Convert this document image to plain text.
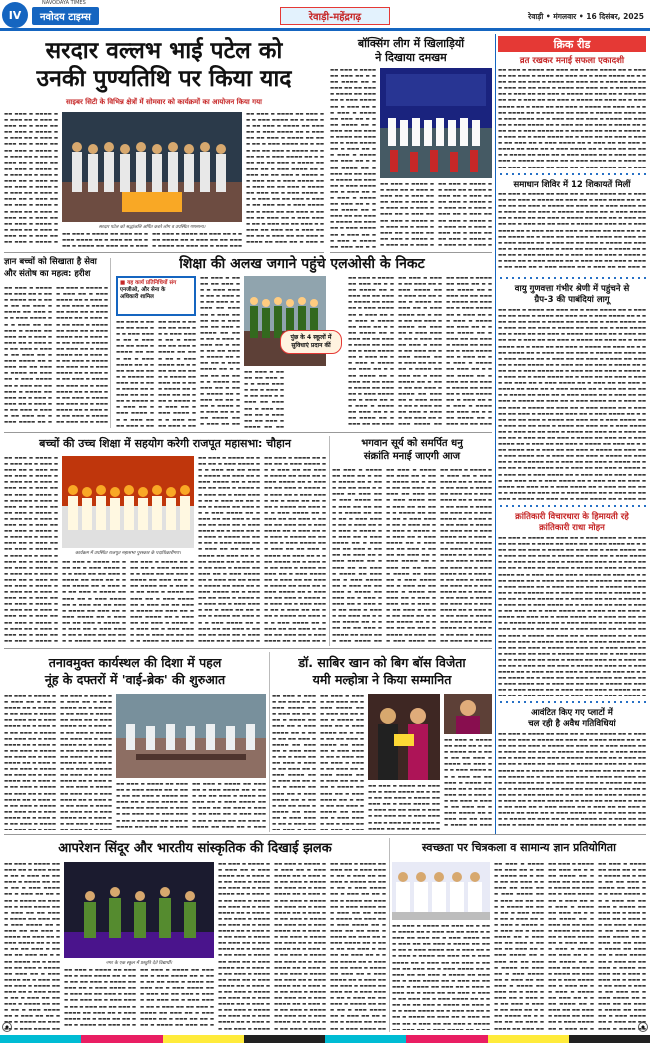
IV
NAVODAYA TIMES
नवोदय टाइम्स	रेवाड़ी-महेंद्रगढ़	रेवाड़ी • मंगलवार • 16 दिसंबर, 2025
सरदार वल्लभ भाई पटेल को
उनकी पुण्यतिथि पर किया याद
साइबर सिटी के विभिन्न क्षेत्रों में सोमवार को कार्यक्रमों का आयोजन किया गया
▬▬ ▬▬▬ ▬ ▬▬▬▬ ▬▬ ▬▬▬ ▬▬ ▬ ▬▬▬ ▬▬▬▬ ▬▬ ▬ ▬▬▬ ▬▬ ▬▬ ▬▬▬ ▬ ▬▬▬▬ ▬▬ ▬▬▬ ▬▬ ▬ ▬▬▬ ▬▬▬▬ ▬▬ ▬ ▬▬▬ ▬▬ ▬▬ ▬▬▬ ▬ ▬▬▬▬ ▬▬ ▬▬▬ ▬▬ ▬ ▬▬▬ ▬▬▬▬ ▬▬ ▬ ▬▬▬ ▬▬ ▬▬ ▬▬▬ ▬ ▬▬▬▬ ▬▬ ▬▬▬ ▬▬ ▬ ▬▬▬ ▬▬▬▬ ▬▬ ▬ ▬▬▬ ▬▬ ▬▬ ▬▬▬ ▬ ▬▬▬▬ ▬▬ ▬▬▬ ▬▬ ▬ ▬▬▬ ▬▬▬▬ ▬▬ ▬ ▬▬▬ ▬▬ ▬▬ ▬▬▬ ▬ ▬▬▬▬ ▬▬ ▬▬▬ ▬▬ ▬ ▬▬▬ ▬▬▬▬ ▬▬ ▬ ▬▬▬ ▬▬ ▬▬ ▬▬▬ ▬ ▬▬▬▬ ▬▬ ▬▬▬ ▬▬ ▬ ▬▬▬ ▬▬▬▬ ▬▬ ▬ ▬▬▬ ▬▬ ▬▬ ▬▬▬ ▬ ▬▬▬▬ ▬▬ ▬▬▬ ▬▬ ▬ ▬▬▬ ▬▬▬▬ ▬▬ ▬ ▬▬▬ ▬▬ ▬▬ ▬▬▬ ▬ ▬▬▬▬ ▬▬ ▬▬▬ ▬▬ ▬ ▬▬▬ ▬▬▬▬ ▬▬ ▬ ▬▬▬ ▬▬ ▬▬ ▬▬▬ ▬ ▬▬▬▬ ▬▬ ▬▬▬ ▬▬ ▬ ▬▬▬ ▬▬▬▬ ▬▬ ▬ ▬▬▬ ▬▬ ▬▬ ▬▬▬ ▬ ▬▬▬▬ ▬▬ ▬▬▬ ▬▬ ▬ ▬▬▬ ▬▬▬▬ ▬▬ ▬ ▬▬▬ ▬▬ ▬▬ ▬▬▬ ▬ ▬▬▬▬ ▬▬ ▬▬▬ ▬▬ ▬ ▬▬▬ ▬▬▬▬ ▬▬ ▬ ▬▬▬ ▬▬ ▬▬ ▬▬▬ ▬ ▬▬▬▬ ▬▬ ▬▬▬ ▬▬ ▬ ▬▬▬ ▬▬▬▬ ▬▬ ▬ ▬▬▬ ▬▬ ▬▬ ▬▬▬ ▬ ▬▬▬▬ ▬▬ ▬▬▬ ▬▬ ▬ ▬▬▬ ▬▬▬▬ ▬▬ ▬ ▬▬▬ ▬▬ ▬▬ ▬▬▬ ▬ ▬▬▬▬ ▬▬ ▬▬▬ ▬▬ ▬ ▬▬▬ ▬▬▬▬ ▬▬ ▬ ▬▬▬ ▬▬ ▬▬ ▬▬▬ ▬ ▬▬▬▬ ▬▬ ▬▬▬ ▬▬ ▬ ▬▬▬ ▬▬▬▬ ▬▬ ▬ ▬▬▬ ▬▬ ▬▬ ▬▬▬ ▬ ▬▬▬▬ ▬▬ ▬▬▬ ▬▬ ▬ ▬▬▬ ▬▬▬▬ ▬▬ ▬ ▬▬▬ ▬▬ ▬▬ ▬▬▬ ▬ ▬▬▬▬ ▬▬ ▬▬▬ ▬▬ ▬ ▬▬▬ ▬▬▬▬ ▬▬ ▬ ▬▬▬ ▬▬ ▬▬ ▬▬▬ ▬ ▬▬▬▬ ▬▬ ▬▬▬ ▬▬ ▬ ▬▬▬ ▬▬▬▬ ▬▬ ▬ ▬▬▬ ▬▬ ▬▬ ▬▬▬ ▬ ▬▬▬▬ ▬▬ ▬▬▬ ▬▬ ▬ ▬▬▬ ▬▬▬▬ ▬▬ ▬ ▬▬▬ ▬▬ ▬▬ ▬▬▬ ▬ ▬▬▬▬ ▬▬ ▬▬▬ ▬▬ ▬ ▬▬▬ ▬▬▬▬ ▬▬ ▬ ▬▬▬ ▬▬ ▬▬ ▬▬▬ ▬ ▬▬▬▬ ▬▬ ▬▬▬ ▬▬ ▬ ▬▬▬ ▬▬▬▬ ▬▬ ▬ ▬▬▬ ▬▬ ▬▬ ▬▬▬ ▬ ▬▬▬▬ ▬▬ ▬▬▬ ▬▬ ▬ ▬▬▬ ▬▬▬▬ ▬▬ ▬ ▬▬▬ ▬▬ ▬▬ ▬▬▬ ▬ ▬▬▬▬ ▬▬ ▬▬▬ ▬▬ ▬ ▬▬▬ ▬▬▬▬ ▬▬ ▬ ▬▬▬ ▬▬ ▬▬ ▬▬▬ ▬ ▬▬▬▬ ▬▬ ▬▬▬ ▬▬ ▬ ▬▬▬ ▬▬▬▬ ▬▬ ▬ ▬▬▬ ▬▬ ▬▬ ▬▬▬ ▬ ▬▬▬▬ ▬▬ ▬▬▬ ▬▬ ▬ ▬▬▬ ▬▬▬▬ ▬▬ ▬ ▬▬▬ ▬▬ ▬▬ ▬▬▬ ▬ ▬▬▬▬ ▬▬ ▬▬▬ ▬▬ ▬ ▬▬▬ ▬▬▬▬ ▬▬ ▬ ▬▬▬ ▬▬ ▬▬ ▬▬▬ ▬ ▬▬▬▬ ▬▬ ▬▬▬ ▬▬ ▬ ▬▬▬ ▬▬▬▬ ▬▬ ▬ ▬▬▬ ▬▬ ▬▬ ▬▬▬ ▬ ▬▬▬▬ ▬▬ ▬▬▬ ▬▬ ▬ ▬▬▬ ▬▬▬▬ ▬▬ ▬ ▬▬▬ ▬▬ ▬▬ ▬▬▬ ▬ ▬▬▬▬ ▬▬ ▬▬▬ ▬▬ ▬ ▬▬▬ ▬▬▬▬ ▬▬ ▬ ▬▬▬ ▬▬ ▬▬ ▬▬▬ ▬ ▬▬▬▬ ▬▬ ▬▬▬ ▬▬ ▬ ▬▬▬ ▬▬▬▬ ▬▬ ▬ ▬▬▬ ▬▬ ▬▬ ▬▬▬ ▬ ▬▬▬▬ ▬▬ ▬▬▬ ▬▬ ▬ ▬▬▬ ▬▬▬▬ ▬▬ ▬ ▬▬▬ ▬▬ ▬▬ ▬▬▬ ▬ ▬▬▬▬ ▬▬ ▬▬▬ ▬▬ ▬ ▬▬▬ ▬▬▬▬ ▬▬ ▬ ▬▬▬ ▬▬ ▬▬ ▬▬▬ ▬ ▬▬▬▬ ▬▬ ▬▬▬ ▬▬ ▬ ▬▬▬ ▬▬▬▬ ▬▬ ▬ ▬▬▬ ▬▬ ▬▬ ▬▬▬ ▬ ▬▬▬▬ ▬▬ ▬▬▬ ▬▬ ▬ ▬▬▬ ▬▬▬▬ ▬▬ ▬ ▬▬▬ ▬▬ ▬▬ ▬▬▬ ▬ ▬▬▬▬ ▬▬ ▬▬▬ ▬▬ ▬ ▬▬▬ ▬▬▬▬ ▬▬ ▬ ▬▬▬ ▬▬ ▬▬ ▬▬▬ ▬ ▬▬▬▬ ▬▬ ▬▬▬ ▬▬ ▬ ▬▬▬ ▬▬▬▬ ▬▬ ▬ ▬▬▬ ▬▬ ▬▬ ▬▬▬ ▬ ▬▬▬▬ ▬▬ ▬▬▬ ▬▬ ▬ ▬▬▬ ▬▬▬▬ ▬▬ ▬ ▬▬▬ ▬▬ ▬▬ ▬▬▬ ▬ ▬▬▬▬ ▬▬ ▬▬▬ ▬▬ ▬ ▬▬▬ ▬▬▬▬ ▬▬ ▬ ▬▬▬ ▬▬ ▬▬ ▬▬▬ ▬ ▬▬▬▬ ▬▬ ▬▬▬ ▬▬ ▬ ▬▬▬ ▬▬▬▬ ▬▬ ▬ ▬▬▬ ▬▬ ▬▬ ▬▬▬ ▬ ▬▬▬▬ ▬▬ ▬▬▬ ▬▬ ▬ ▬▬▬ ▬▬▬▬ ▬▬ ▬ ▬▬▬ ▬▬ ▬▬ ▬▬▬ ▬ ▬▬▬▬ ▬▬ ▬▬▬ ▬▬ ▬ ▬▬▬ ▬▬▬▬ ▬▬ ▬ ▬▬▬ ▬▬ ▬▬ ▬▬▬ ▬ ▬▬▬▬ ▬▬ ▬▬▬ ▬▬ ▬ ▬▬▬ ▬▬▬▬ ▬▬ ▬ ▬▬▬ ▬▬ ▬▬ ▬▬▬ ▬ ▬▬▬▬ ▬▬ ▬▬▬ ▬▬ ▬ ▬▬▬ ▬▬▬▬ ▬▬ ▬ ▬▬▬ ▬▬ ▬▬ ▬▬▬ ▬ ▬▬▬▬ ▬▬ ▬▬▬ ▬▬ ▬ ▬▬▬ ▬▬▬▬ ▬▬ ▬ ▬▬▬ ▬▬ ▬▬ ▬▬▬ ▬ ▬▬▬▬ ▬▬ ▬▬▬ ▬▬ ▬ ▬▬▬ ▬▬▬▬ ▬▬ ▬ ▬▬▬ ▬▬ ▬▬ ▬▬▬ ▬ ▬▬▬▬ ▬▬ ▬▬▬ ▬▬ ▬ ▬▬▬ ▬▬▬▬ ▬▬ ▬ ▬▬▬ ▬▬ ▬▬ ▬▬▬ ▬ ▬▬▬▬ ▬▬ ▬▬▬ ▬▬ ▬ ▬▬▬ ▬▬▬▬ ▬▬ ▬ ▬▬▬ ▬▬ ▬▬ ▬▬▬ ▬ ▬▬▬▬ ▬▬ ▬▬▬ ▬▬ ▬ ▬▬▬ ▬▬▬▬ ▬▬ ▬ ▬▬▬ ▬▬ ▬▬ ▬▬▬ ▬ ▬▬▬▬ ▬▬ ▬▬▬ ▬▬ ▬ ▬▬▬ ▬▬▬▬ ▬▬ ▬ ▬▬▬ ▬▬ ▬▬ ▬▬▬ ▬ ▬▬▬▬ ▬▬ ▬▬▬ ▬▬ ▬ ▬▬▬ ▬▬▬▬ ▬▬ ▬ ▬▬▬ ▬▬ ▬▬ ▬▬▬ ▬ ▬▬▬▬ ▬▬ ▬▬▬ ▬▬ ▬ ▬▬▬ ▬▬▬▬ ▬▬ ▬ ▬▬▬ ▬▬ ▬▬ ▬▬▬ ▬ ▬▬▬▬ ▬▬ ▬▬▬ ▬▬ ▬ ▬▬▬ ▬▬▬▬ ▬▬ ▬ ▬▬▬ ▬▬ ▬▬ ▬▬▬ ▬ ▬▬▬▬ ▬▬ ▬▬▬ ▬▬ ▬ ▬▬▬ ▬▬▬▬ ▬▬ ▬ ▬▬▬ ▬▬ ▬▬ ▬▬▬ ▬ ▬▬▬▬ ▬▬ ▬▬▬ ▬▬ ▬ ▬▬▬ ▬▬▬▬ ▬▬ ▬ ▬▬▬ ▬▬ ▬▬ ▬▬▬ ▬ ▬▬▬▬ ▬▬ ▬▬▬ ▬▬ ▬ ▬▬▬ ▬▬▬▬ ▬▬ ▬ ▬▬▬ ▬▬ ▬▬ ▬▬▬ ▬ ▬▬▬▬ ▬▬ ▬▬▬ ▬▬ ▬ ▬▬▬ ▬▬▬▬ ▬▬ ▬ ▬▬▬ ▬▬ ▬▬ ▬▬▬ ▬ ▬▬▬▬ ▬▬ ▬▬▬ ▬▬ ▬ ▬▬▬ ▬▬▬▬ ▬▬ ▬ ▬▬▬ ▬▬ ▬▬ ▬▬▬ ▬ ▬▬▬▬ ▬▬ ▬▬▬ ▬▬ ▬ ▬▬▬ ▬▬▬▬ ▬▬ ▬ ▬▬▬ ▬▬ ▬▬ ▬▬▬ ▬ ▬▬▬▬ ▬▬ ▬▬▬ ▬▬ ▬ ▬▬▬ ▬▬▬▬ ▬▬ ▬ ▬▬▬ ▬▬
सरदार पटेल को श्रद्धांजलि अर्पित करते लोग व उपस्थित गणमान्य।
▬▬ ▬▬▬ ▬ ▬▬▬▬ ▬▬ ▬▬▬ ▬▬ ▬ ▬▬▬ ▬▬▬▬ ▬▬ ▬ ▬▬▬ ▬▬ ▬▬ ▬▬▬ ▬ ▬▬▬▬ ▬▬ ▬▬▬ ▬▬ ▬ ▬▬▬ ▬▬▬▬ ▬▬ ▬ ▬▬▬ ▬▬ ▬▬ ▬▬▬ ▬ ▬▬▬▬ ▬▬ ▬▬▬ ▬▬ ▬ ▬▬▬ ▬▬▬▬ ▬▬ ▬ ▬▬▬ ▬▬ ▬▬ ▬▬▬ ▬ ▬▬▬▬ ▬▬ ▬▬▬ ▬▬ ▬ ▬▬▬ ▬▬▬▬ ▬▬ ▬ ▬▬▬ ▬▬ ▬▬ ▬▬▬ ▬ ▬▬▬▬ ▬▬ ▬▬▬ ▬▬ ▬ ▬▬▬ ▬▬▬▬ ▬▬ ▬ ▬▬▬ ▬▬ ▬▬ ▬▬▬ ▬ ▬▬▬▬ ▬▬ ▬▬▬ ▬▬ ▬ ▬▬▬ ▬▬▬▬ ▬▬ ▬ ▬▬▬ ▬▬ ▬▬ ▬▬▬ ▬ ▬▬▬▬ ▬▬ ▬▬▬ ▬▬ ▬ ▬▬▬ ▬▬▬▬ ▬▬ ▬ ▬▬▬ ▬▬ ▬▬ ▬▬▬ ▬ ▬▬▬▬ ▬▬ ▬▬▬ ▬▬ ▬ ▬▬▬ ▬▬▬▬ ▬▬ ▬ ▬▬▬ ▬▬ ▬▬ ▬▬▬ ▬ ▬▬▬▬ ▬▬ ▬▬▬ ▬▬ ▬ ▬▬▬ ▬▬▬▬ ▬▬ ▬ ▬▬▬ ▬▬ ▬▬ ▬▬▬ ▬ ▬▬▬▬ ▬▬ ▬▬▬ ▬▬ ▬ ▬▬▬ ▬▬▬▬ ▬▬ ▬ ▬▬▬ ▬▬ ▬▬ ▬▬▬ ▬ ▬▬▬▬ ▬▬ ▬▬▬ ▬▬ ▬ ▬▬▬ ▬▬▬▬ ▬▬ ▬ ▬▬▬ ▬▬ ▬▬ ▬▬▬ ▬ ▬▬▬▬ ▬▬ ▬▬▬ ▬▬ ▬ ▬▬▬ ▬▬▬▬ ▬▬ ▬ ▬▬▬ ▬▬ ▬▬ ▬▬▬ ▬ ▬▬▬▬ ▬▬ ▬▬▬ ▬▬ ▬ ▬▬▬ ▬▬▬▬ ▬▬ ▬ ▬▬▬ ▬▬ ▬▬ ▬▬▬ ▬ ▬▬▬▬ ▬▬ ▬▬▬ ▬▬ ▬ ▬▬▬ ▬▬▬▬ ▬▬ ▬ ▬▬▬ ▬▬ ▬▬ ▬▬▬ ▬ ▬▬▬▬ ▬▬ ▬▬▬ ▬▬ ▬ ▬▬▬ ▬▬▬▬ ▬▬ ▬ ▬▬▬ ▬▬ ▬▬ ▬▬▬ ▬ ▬▬▬▬ ▬▬ ▬▬▬ ▬▬ ▬ ▬▬▬ ▬▬▬▬ ▬▬ ▬ ▬▬▬ ▬▬ ▬▬ ▬▬▬ ▬ ▬▬▬▬ ▬▬ ▬▬▬ ▬▬ ▬ ▬▬▬ ▬▬▬▬ ▬▬ ▬ ▬▬▬ ▬▬ ▬▬ ▬▬▬ ▬ ▬▬▬▬ ▬▬ ▬▬▬ ▬▬ ▬ ▬▬▬ ▬▬▬▬ ▬▬ ▬ ▬▬▬ ▬▬ ▬▬ ▬▬▬ ▬ ▬▬▬▬ ▬▬ ▬▬▬ ▬▬ ▬ ▬▬▬ ▬▬▬▬ ▬▬ ▬ ▬▬▬ ▬▬ ▬▬ ▬▬▬ ▬ ▬▬▬▬ ▬▬ ▬▬▬ ▬▬ ▬ ▬▬▬ ▬▬▬▬ ▬▬ ▬ ▬▬▬ ▬▬ ▬▬ ▬▬▬ ▬ ▬▬▬▬ ▬▬ ▬▬▬ ▬▬ ▬ ▬▬▬ ▬▬▬▬ ▬▬ ▬ ▬▬▬ ▬▬ ▬▬ ▬▬▬ ▬ ▬▬▬▬ ▬▬ ▬▬▬ ▬▬ ▬ ▬▬▬ ▬▬▬▬ ▬▬ ▬ ▬▬▬ ▬▬ ▬▬ ▬▬▬ ▬ ▬▬▬▬ ▬▬ ▬▬▬ ▬▬ ▬ ▬▬▬ ▬▬▬▬ ▬▬ ▬ ▬▬▬ ▬▬ ▬▬ ▬▬▬ ▬ ▬▬▬▬ ▬▬ ▬▬▬ ▬▬ ▬ ▬▬▬ ▬▬▬▬ ▬▬ ▬ ▬▬▬ ▬▬ ▬▬ ▬▬▬ ▬ ▬▬▬▬ ▬▬ ▬▬▬ ▬▬ ▬ ▬▬▬ ▬▬▬▬ ▬▬ ▬ ▬▬▬ ▬▬ ▬▬ ▬▬▬ ▬ ▬▬▬▬ ▬▬ ▬▬▬ ▬▬ ▬ ▬▬▬ ▬▬▬▬ ▬▬ ▬ ▬▬▬ ▬▬ ▬▬ ▬▬▬ ▬ ▬▬▬▬ ▬▬ ▬▬▬ ▬▬ ▬ ▬▬▬ ▬▬▬▬ ▬▬ ▬ ▬▬▬ ▬▬ ▬▬ ▬▬▬ ▬ ▬▬▬▬ ▬▬ ▬▬▬ ▬▬ ▬ ▬▬▬ ▬▬▬▬ ▬▬ ▬ ▬▬▬ ▬▬ ▬▬ ▬▬▬ ▬ ▬▬▬▬ ▬▬ ▬▬▬ ▬▬ ▬ ▬▬▬ ▬▬▬▬ ▬▬ ▬ ▬▬▬ ▬▬ ▬▬ ▬▬▬ ▬ ▬▬▬▬ ▬▬ ▬▬▬ ▬▬ ▬ ▬▬▬ ▬▬▬▬ ▬▬ ▬ ▬▬▬ ▬▬ ▬▬ ▬▬▬ ▬ ▬▬▬▬ ▬▬ ▬▬▬ ▬▬ ▬ ▬▬▬ ▬▬▬▬ ▬▬ ▬ ▬▬▬ ▬▬ ▬▬ ▬▬▬ ▬ ▬▬▬▬ ▬▬ ▬▬▬ ▬▬ ▬ ▬▬▬ ▬▬▬▬ ▬▬ ▬ ▬▬▬ ▬▬ ▬▬ ▬▬▬ ▬ ▬▬▬▬ ▬▬ ▬▬▬ ▬▬ ▬ ▬▬▬ ▬▬▬▬ ▬▬ ▬ ▬▬▬ ▬▬ ▬▬ ▬▬▬ ▬ ▬▬▬▬ ▬▬ ▬▬▬ ▬▬ ▬ ▬▬▬ ▬▬▬▬ ▬▬ ▬ ▬▬▬ ▬▬ ▬▬ ▬▬▬ ▬ ▬▬▬▬ ▬▬ ▬▬▬ ▬▬ ▬ ▬▬▬ ▬▬▬▬ ▬▬ ▬ ▬▬▬ ▬▬ ▬▬ ▬▬▬ ▬ ▬▬▬▬ ▬▬ ▬▬▬ ▬▬ ▬ ▬▬▬ ▬▬▬▬ ▬▬ ▬ ▬▬▬ ▬▬ ▬▬ ▬▬▬ ▬ ▬▬▬▬ ▬▬ ▬▬▬ ▬▬ ▬ ▬▬▬ ▬▬▬▬ ▬▬ ▬ ▬▬▬ ▬▬ ▬▬ ▬▬▬ ▬ ▬▬▬▬ ▬▬ ▬▬▬ ▬▬ ▬ ▬▬▬ ▬▬▬▬ ▬▬ ▬ ▬▬▬ ▬▬ ▬▬ ▬▬▬ ▬ ▬▬▬▬ ▬▬ ▬▬▬ ▬▬ ▬ ▬▬▬ ▬▬▬▬ ▬▬ ▬ ▬▬▬ ▬▬ ▬▬ ▬▬▬ ▬ ▬▬▬▬ ▬▬ ▬▬▬ ▬▬ ▬ ▬▬▬ ▬▬▬▬ ▬▬ ▬ ▬▬▬ ▬▬ ▬▬ ▬▬▬ ▬ ▬▬▬▬ ▬▬ ▬▬▬ ▬▬ ▬ ▬▬▬ ▬▬▬▬ ▬▬ ▬ ▬▬▬ ▬▬ ▬▬ ▬▬▬ ▬ ▬▬▬▬ ▬▬ ▬▬▬ ▬▬ ▬ ▬▬▬ ▬▬▬▬ ▬▬ ▬ ▬▬▬ ▬▬ ▬▬ ▬▬▬ ▬ ▬▬▬▬ ▬▬ ▬▬▬ ▬▬ ▬ ▬▬▬ ▬▬▬▬ ▬▬ ▬ ▬▬▬ ▬▬ ▬▬ ▬▬▬ ▬ ▬▬▬▬ ▬▬ ▬▬▬ ▬▬ ▬ ▬▬▬ ▬▬▬▬ ▬▬ ▬ ▬▬▬ ▬▬ ▬▬ ▬▬▬ ▬ ▬▬▬▬ ▬▬ ▬▬▬ ▬▬ ▬ ▬▬▬ ▬▬▬▬ ▬▬ ▬ ▬▬▬ ▬▬ ▬▬ ▬▬▬ ▬ ▬▬▬▬ ▬▬ ▬▬▬ ▬▬ ▬ ▬▬▬ ▬▬▬▬ ▬▬ ▬ ▬▬▬ ▬▬ ▬▬ ▬▬▬ ▬ ▬▬▬▬ ▬▬ ▬▬▬ ▬▬ ▬ ▬▬▬ ▬▬▬▬ ▬▬ ▬ ▬▬▬ ▬▬ ▬▬ ▬▬▬ ▬ ▬▬▬▬ ▬▬ ▬▬▬ ▬▬ ▬ ▬▬▬ ▬▬▬▬ ▬▬ ▬ ▬▬▬ ▬▬ ▬▬ ▬▬▬ ▬ ▬▬▬▬ ▬▬ ▬▬▬ ▬▬ ▬ ▬▬▬ ▬▬▬▬ ▬▬ ▬ ▬▬▬ ▬▬ ▬▬ ▬▬▬ ▬ ▬▬▬▬ ▬▬ ▬▬▬ ▬▬ ▬ ▬▬▬ ▬▬▬▬ ▬▬ ▬ ▬▬▬ ▬▬ ▬▬ ▬▬▬ ▬ ▬▬▬▬ ▬▬ ▬▬▬ ▬▬ ▬ ▬▬▬ ▬▬▬▬ ▬▬ ▬ ▬▬▬ ▬▬ ▬▬ ▬▬▬ ▬ ▬▬▬▬ ▬▬ ▬▬▬ ▬▬ ▬ ▬▬▬ ▬▬▬▬ ▬▬ ▬ ▬▬▬ ▬▬ ▬▬ ▬▬▬ ▬ ▬▬▬▬ ▬▬ ▬▬▬ ▬▬ ▬ ▬▬▬ ▬▬▬▬ ▬▬ ▬ ▬▬▬ ▬▬ ▬▬ ▬▬▬ ▬ ▬▬▬▬ ▬▬ ▬▬▬ ▬▬ ▬ ▬▬▬ ▬▬▬▬ ▬▬ ▬ ▬▬▬ ▬▬ ▬▬ ▬▬▬ ▬ ▬▬▬▬ ▬▬ ▬▬▬ ▬▬ ▬ ▬▬▬ ▬▬▬▬ ▬▬ ▬ ▬▬▬ ▬▬ ▬▬ ▬▬▬ ▬ ▬▬▬▬ ▬▬ ▬▬▬ ▬▬ ▬ ▬▬▬ ▬▬▬▬ ▬▬ ▬ ▬▬▬ ▬▬ ▬▬ ▬▬▬ ▬ ▬▬▬▬ ▬▬ ▬▬▬ ▬▬ ▬ ▬▬▬ ▬▬▬▬ ▬▬ ▬ ▬▬▬ ▬▬ ▬▬ ▬▬▬ ▬ ▬▬▬▬ ▬▬ ▬▬▬ ▬▬ ▬ ▬▬▬ ▬▬▬▬ ▬▬ ▬ ▬▬▬ ▬▬ ▬▬ ▬▬▬ ▬ ▬▬▬▬ ▬▬ ▬▬▬ ▬▬ ▬ ▬▬▬ ▬▬▬▬ ▬▬ ▬ ▬▬▬ ▬▬ ▬▬ ▬▬▬ ▬ ▬▬▬▬ ▬▬ ▬▬▬ ▬▬ ▬ ▬▬▬ ▬▬▬▬ ▬▬ ▬ ▬▬▬ ▬▬
▬▬ ▬▬▬ ▬ ▬▬▬▬ ▬▬ ▬▬▬ ▬▬ ▬ ▬▬▬ ▬▬▬▬ ▬▬ ▬ ▬▬▬ ▬▬ ▬▬ ▬▬▬ ▬ ▬▬▬▬ ▬▬ ▬▬▬ ▬▬ ▬ ▬▬▬ ▬▬▬▬ ▬▬ ▬ ▬▬▬ ▬▬ ▬▬ ▬▬▬ ▬ ▬▬▬▬ ▬▬ ▬▬▬ ▬▬ ▬ ▬▬▬ ▬▬▬▬ ▬▬ ▬ ▬▬▬ ▬▬ ▬▬ ▬▬▬ ▬ ▬▬▬▬ ▬▬ ▬▬▬ ▬▬ ▬ ▬▬▬ ▬▬▬▬ ▬▬ ▬ ▬▬▬ ▬▬ ▬▬ ▬▬▬ ▬ ▬▬▬▬ ▬▬ ▬▬▬ ▬▬ ▬ ▬▬▬ ▬▬▬▬ ▬▬ ▬ ▬▬▬ ▬▬ ▬▬ ▬▬▬ ▬ ▬▬▬▬ ▬▬ ▬▬▬ ▬▬ ▬ ▬▬▬ ▬▬▬▬ ▬▬ ▬ ▬▬▬ ▬▬ ▬▬ ▬▬▬ ▬ ▬▬▬▬ ▬▬ ▬▬▬ ▬▬ ▬ ▬▬▬ ▬▬▬▬ ▬▬ ▬ ▬▬▬ ▬▬ ▬▬ ▬▬▬ ▬ ▬▬▬▬ ▬▬ ▬▬▬ ▬▬ ▬ ▬▬▬ ▬▬▬▬ ▬▬ ▬ ▬▬▬ ▬▬ ▬▬ ▬▬▬ ▬ ▬▬▬▬ ▬▬ ▬▬▬ ▬▬ ▬ ▬▬▬ ▬▬▬▬ ▬▬ ▬ ▬▬▬ ▬▬ ▬▬ ▬▬▬ ▬ ▬▬▬▬ ▬▬ ▬▬▬ ▬▬ ▬ ▬▬▬ ▬▬▬▬ ▬▬ ▬ ▬▬▬ ▬▬ ▬▬ ▬▬▬ ▬ ▬▬▬▬ ▬▬ ▬▬▬ ▬▬ ▬ ▬▬▬ ▬▬▬▬ ▬▬ ▬ ▬▬▬ ▬▬ ▬▬ ▬▬▬ ▬ ▬▬▬▬ ▬▬ ▬▬▬ ▬▬ ▬ ▬▬▬ ▬▬▬▬ ▬▬ ▬ ▬▬▬ ▬▬ ▬▬ ▬▬▬ ▬ ▬▬▬▬ ▬▬ ▬▬▬ ▬▬ ▬ ▬▬▬ ▬▬▬▬ ▬▬ ▬ ▬▬▬ ▬▬ ▬▬ ▬▬▬ ▬ ▬▬▬▬ ▬▬ ▬▬▬ ▬▬ ▬ ▬▬▬ ▬▬▬▬ ▬▬ ▬ ▬▬▬ ▬▬ ▬▬ ▬▬▬ ▬ ▬▬▬▬ ▬▬ ▬▬▬ ▬▬ ▬ ▬▬▬ ▬▬▬▬ ▬▬ ▬ ▬▬▬ ▬▬ ▬▬ ▬▬▬ ▬ ▬▬▬▬ ▬▬ ▬▬▬ ▬▬ ▬ ▬▬▬ ▬▬▬▬ ▬▬ ▬ ▬▬▬ ▬▬ ▬▬ ▬▬▬ ▬ ▬▬▬▬ ▬▬ ▬▬▬ ▬▬ ▬ ▬▬▬ ▬▬▬▬ ▬▬ ▬ ▬▬▬ ▬▬ ▬▬ ▬▬▬ ▬ ▬▬▬▬ ▬▬ ▬▬▬ ▬▬ ▬ ▬▬▬ ▬▬▬▬ ▬▬ ▬ ▬▬▬ ▬▬ ▬▬ ▬▬▬ ▬ ▬▬▬▬ ▬▬ ▬▬▬ ▬▬ ▬ ▬▬▬ ▬▬▬▬ ▬▬ ▬ ▬▬▬ ▬▬ ▬▬ ▬▬▬ ▬ ▬▬▬▬ ▬▬ ▬▬▬ ▬▬ ▬ ▬▬▬ ▬▬▬▬ ▬▬ ▬ ▬▬▬ ▬▬ ▬▬ ▬▬▬ ▬ ▬▬▬▬ ▬▬ ▬▬▬ ▬▬ ▬ ▬▬▬ ▬▬▬▬ ▬▬ ▬ ▬▬▬ ▬▬ ▬▬ ▬▬▬ ▬ ▬▬▬▬ ▬▬ ▬▬▬ ▬▬ ▬ ▬▬▬ ▬▬▬▬ ▬▬ ▬ ▬▬▬ ▬▬ ▬▬ ▬▬▬ ▬ ▬▬▬▬ ▬▬ ▬▬▬ ▬▬ ▬ ▬▬▬ ▬▬▬▬ ▬▬ ▬ ▬▬▬ ▬▬ ▬▬ ▬▬▬ ▬ ▬▬▬▬ ▬▬ ▬▬▬ ▬▬ ▬ ▬▬▬ ▬▬▬▬ ▬▬ ▬ ▬▬▬ ▬▬ ▬▬ ▬▬▬ ▬ ▬▬▬▬ ▬▬ ▬▬▬ ▬▬ ▬ ▬▬▬ ▬▬▬▬ ▬▬ ▬ ▬▬▬ ▬▬ ▬▬ ▬▬▬ ▬ ▬▬▬▬ ▬▬ ▬▬▬ ▬▬ ▬ ▬▬▬ ▬▬▬▬ ▬▬ ▬ ▬▬▬ ▬▬ ▬▬ ▬▬▬ ▬ ▬▬▬▬ ▬▬ ▬▬▬ ▬▬ ▬ ▬▬▬ ▬▬▬▬ ▬▬ ▬ ▬▬▬ ▬▬ ▬▬ ▬▬▬ ▬ ▬▬▬▬ ▬▬ ▬▬▬ ▬▬ ▬ ▬▬▬ ▬▬▬▬ ▬▬ ▬ ▬▬▬ ▬▬ ▬▬ ▬▬▬ ▬ ▬▬▬▬ ▬▬ ▬▬▬ ▬▬ ▬ ▬▬▬ ▬▬▬▬ ▬▬ ▬ ▬▬▬ ▬▬ ▬▬ ▬▬▬ ▬ ▬▬▬▬ ▬▬ ▬▬▬ ▬▬ ▬ ▬▬▬ ▬▬▬▬ ▬▬ ▬ ▬▬▬ ▬▬ ▬▬ ▬▬▬ ▬ ▬▬▬▬ ▬▬ ▬▬▬ ▬▬ ▬ ▬▬▬ ▬▬▬▬ ▬▬ ▬ ▬▬▬ ▬▬ ▬▬ ▬▬▬ ▬ ▬▬▬▬ ▬▬ ▬▬▬ ▬▬ ▬ ▬▬▬ ▬▬▬▬ ▬▬ ▬ ▬▬▬ ▬▬ ▬▬ ▬▬▬ ▬ ▬▬▬▬ ▬▬ ▬▬▬ ▬▬ ▬ ▬▬▬ ▬▬▬▬ ▬▬ ▬ ▬▬▬ ▬▬ ▬▬ ▬▬▬ ▬ ▬▬▬▬ ▬▬ ▬▬▬ ▬▬ ▬ ▬▬▬ ▬▬▬▬ ▬▬ ▬ ▬▬▬ ▬▬ ▬▬ ▬▬▬ ▬ ▬▬▬▬ ▬▬ ▬▬▬ ▬▬ ▬ ▬▬▬ ▬▬▬▬ ▬▬ ▬ ▬▬▬ ▬▬ ▬▬ ▬▬▬ ▬ ▬▬▬▬ ▬▬ ▬▬▬ ▬▬ ▬ ▬▬▬ ▬▬▬▬ ▬▬ ▬ ▬▬▬ ▬▬ ▬▬ ▬▬▬ ▬ ▬▬▬▬ ▬▬ ▬▬▬ ▬▬ ▬ ▬▬▬ ▬▬▬▬ ▬▬ ▬ ▬▬▬ ▬▬ ▬▬ ▬▬▬ ▬ ▬▬▬▬ ▬▬ ▬▬▬ ▬▬ ▬ ▬▬▬ ▬▬▬▬ ▬▬ ▬ ▬▬▬ ▬▬ ▬▬ ▬▬▬ ▬ ▬▬▬▬ ▬▬ ▬▬▬ ▬▬ ▬ ▬▬▬ ▬▬▬▬ ▬▬ ▬ ▬▬▬ ▬▬ ▬▬ ▬▬▬ ▬ ▬▬▬▬ ▬▬ ▬▬▬ ▬▬ ▬ ▬▬▬ ▬▬▬▬ ▬▬ ▬ ▬▬▬ ▬▬ ▬▬ ▬▬▬ ▬ ▬▬▬▬ ▬▬ ▬▬▬ ▬▬ ▬ ▬▬▬ ▬▬▬▬ ▬▬ ▬ ▬▬▬ ▬▬ ▬▬ ▬▬▬ ▬ ▬▬▬▬ ▬▬ ▬▬▬ ▬▬ ▬ ▬▬▬ ▬▬▬▬ ▬▬ ▬ ▬▬▬ ▬▬ ▬▬ ▬▬▬ ▬ ▬▬▬▬ ▬▬ ▬▬▬ ▬▬ ▬ ▬▬▬ ▬▬▬▬ ▬▬ ▬ ▬▬▬ ▬▬ ▬▬ ▬▬▬ ▬ ▬▬▬▬ ▬▬ ▬▬▬ ▬▬ ▬ ▬▬▬ ▬▬▬▬ ▬▬ ▬ ▬▬▬ ▬▬ ▬▬ ▬▬▬ ▬ ▬▬▬▬ ▬▬ ▬▬▬ ▬▬ ▬ ▬▬▬ ▬▬▬▬ ▬▬ ▬ ▬▬▬ ▬▬ ▬▬ ▬▬▬ ▬ ▬▬▬▬ ▬▬ ▬▬▬ ▬▬ ▬ ▬▬▬ ▬▬▬▬ ▬▬ ▬ ▬▬▬ ▬▬ ▬▬ ▬▬▬ ▬ ▬▬▬▬ ▬▬ ▬▬▬ ▬▬ ▬ ▬▬▬ ▬▬▬▬ ▬▬ ▬ ▬▬▬ ▬▬ ▬▬ ▬▬▬ ▬ ▬▬▬▬ ▬▬ ▬▬▬ ▬▬ ▬ ▬▬▬ ▬▬▬▬ ▬▬ ▬ ▬▬▬ ▬▬ ▬▬ ▬▬▬ ▬ ▬▬▬▬ ▬▬ ▬▬▬ ▬▬ ▬ ▬▬▬ ▬▬▬▬ ▬▬ ▬ ▬▬▬ ▬▬ ▬▬ ▬▬▬ ▬ ▬▬▬▬ ▬▬ ▬▬▬ ▬▬ ▬ ▬▬▬ ▬▬▬▬ ▬▬ ▬ ▬▬▬ ▬▬ ▬▬ ▬▬▬ ▬ ▬▬▬▬ ▬▬ ▬▬▬ ▬▬ ▬ ▬▬▬ ▬▬▬▬ ▬▬ ▬ ▬▬▬ ▬▬ ▬▬ ▬▬▬ ▬ ▬▬▬▬ ▬▬ ▬▬▬ ▬▬ ▬ ▬▬▬ ▬▬▬▬ ▬▬ ▬ ▬▬▬ ▬▬ ▬▬ ▬▬▬ ▬ ▬▬▬▬ ▬▬ ▬▬▬ ▬▬ ▬ ▬▬▬ ▬▬▬▬ ▬▬ ▬ ▬▬▬ ▬▬ ▬▬ ▬▬▬ ▬ ▬▬▬▬ ▬▬ ▬▬▬ ▬▬ ▬ ▬▬▬ ▬▬▬▬ ▬▬ ▬ ▬▬▬ ▬▬ ▬▬ ▬▬▬ ▬ ▬▬▬▬ ▬▬ ▬▬▬ ▬▬ ▬ ▬▬▬ ▬▬▬▬ ▬▬ ▬ ▬▬▬ ▬▬ ▬▬ ▬▬▬ ▬ ▬▬▬▬ ▬▬ ▬▬▬ ▬▬ ▬ ▬▬▬ ▬▬▬▬ ▬▬ ▬ ▬▬▬ ▬▬ ▬▬ ▬▬▬ ▬ ▬▬▬▬ ▬▬ ▬▬▬ ▬▬ ▬ ▬▬▬ ▬▬▬▬ ▬▬ ▬ ▬▬▬ ▬▬ ▬▬ ▬▬▬ ▬ ▬▬▬▬ ▬▬ ▬▬▬ ▬▬ ▬ ▬▬▬ ▬▬▬▬ ▬▬ ▬ ▬▬▬ ▬▬ ▬▬ ▬▬▬ ▬ ▬▬▬▬ ▬▬ ▬▬▬ ▬▬ ▬ ▬▬▬ ▬▬▬▬ ▬▬ ▬ ▬▬▬ ▬▬ ▬▬ ▬▬▬ ▬ ▬▬▬▬ ▬▬ ▬▬▬ ▬▬ ▬ ▬▬▬ ▬▬▬▬ ▬▬ ▬ ▬▬▬ ▬▬
▬▬ ▬▬▬ ▬ ▬▬▬▬ ▬▬ ▬▬▬ ▬▬ ▬ ▬▬▬ ▬▬▬▬ ▬▬ ▬ ▬▬▬ ▬▬ ▬▬ ▬▬▬ ▬ ▬▬▬▬ ▬▬ ▬▬▬ ▬▬ ▬ ▬▬▬ ▬▬▬▬ ▬▬ ▬ ▬▬▬ ▬▬ ▬▬ ▬▬▬ ▬ ▬▬▬▬ ▬▬ ▬▬▬ ▬▬ ▬ ▬▬▬ ▬▬▬▬ ▬▬ ▬ ▬▬▬ ▬▬ ▬▬ ▬▬▬ ▬ ▬▬▬▬ ▬▬ ▬▬▬ ▬▬ ▬ ▬▬▬ ▬▬▬▬ ▬▬ ▬ ▬▬▬ ▬▬ ▬▬ ▬▬▬ ▬ ▬▬▬▬ ▬▬ ▬▬▬ ▬▬ ▬ ▬▬▬ ▬▬▬▬ ▬▬ ▬ ▬▬▬ ▬▬ ▬▬ ▬▬▬ ▬ ▬▬▬▬ ▬▬ ▬▬▬ ▬▬ ▬ ▬▬▬ ▬▬▬▬ ▬▬ ▬ ▬▬▬ ▬▬ ▬▬ ▬▬▬ ▬ ▬▬▬▬ ▬▬ ▬▬▬ ▬▬ ▬ ▬▬▬ ▬▬▬▬ ▬▬ ▬ ▬▬▬ ▬▬ ▬▬ ▬▬▬ ▬ ▬▬▬▬ ▬▬ ▬▬▬ ▬▬ ▬ ▬▬▬ ▬▬▬▬ ▬▬ ▬ ▬▬▬ ▬▬ ▬▬ ▬▬▬ ▬ ▬▬▬▬ ▬▬ ▬▬▬ ▬▬ ▬ ▬▬▬ ▬▬▬▬ ▬▬ ▬ ▬▬▬ ▬▬ ▬▬ ▬▬▬ ▬ ▬▬▬▬ ▬▬ ▬▬▬ ▬▬ ▬ ▬▬▬ ▬▬▬▬ ▬▬ ▬ ▬▬▬ ▬▬ ▬▬ ▬▬▬ ▬ ▬▬▬▬ ▬▬ ▬▬▬ ▬▬ ▬ ▬▬▬ ▬▬▬▬ ▬▬ ▬ ▬▬▬ ▬▬ ▬▬ ▬▬▬ ▬ ▬▬▬▬ ▬▬ ▬▬▬ ▬▬ ▬ ▬▬▬ ▬▬▬▬ ▬▬ ▬ ▬▬▬ ▬▬ ▬▬ ▬▬▬ ▬ ▬▬▬▬ ▬▬ ▬▬▬ ▬▬ ▬ ▬▬▬ ▬▬▬▬ ▬▬ ▬ ▬▬▬ ▬▬ ▬▬ ▬▬▬ ▬ ▬▬▬▬ ▬▬ ▬▬▬ ▬▬ ▬ ▬▬▬ ▬▬▬▬ ▬▬ ▬ ▬▬▬ ▬▬ ▬▬ ▬▬▬ ▬ ▬▬▬▬ ▬▬ ▬▬▬ ▬▬ ▬ ▬▬▬ ▬▬▬▬ ▬▬ ▬ ▬▬▬ ▬▬ ▬▬ ▬▬▬ ▬ ▬▬▬▬ ▬▬ ▬▬▬ ▬▬ ▬ ▬▬▬ ▬▬▬▬ ▬▬ ▬ ▬▬▬ ▬▬ ▬▬ ▬▬▬ ▬ ▬▬▬▬ ▬▬ ▬▬▬ ▬▬ ▬ ▬▬▬ ▬▬▬▬ ▬▬ ▬ ▬▬▬ ▬▬ ▬▬ ▬▬▬ ▬ ▬▬▬▬ ▬▬ ▬▬▬ ▬▬ ▬ ▬▬▬ ▬▬▬▬ ▬▬ ▬ ▬▬▬ ▬▬ ▬▬ ▬▬▬ ▬ ▬▬▬▬ ▬▬ ▬▬▬ ▬▬ ▬ ▬▬▬ ▬▬▬▬ ▬▬ ▬ ▬▬▬ ▬▬ ▬▬ ▬▬▬ ▬ ▬▬▬▬ ▬▬ ▬▬▬ ▬▬ ▬ ▬▬▬ ▬▬▬▬ ▬▬ ▬ ▬▬▬ ▬▬ ▬▬ ▬▬▬ ▬ ▬▬▬▬ ▬▬ ▬▬▬ ▬▬ ▬ ▬▬▬ ▬▬▬▬ ▬▬ ▬ ▬▬▬ ▬▬ ▬▬ ▬▬▬ ▬ ▬▬▬▬ ▬▬ ▬▬▬ ▬▬ ▬ ▬▬▬ ▬▬▬▬ ▬▬ ▬ ▬▬▬ ▬▬ ▬▬ ▬▬▬ ▬ ▬▬▬▬ ▬▬ ▬▬▬ ▬▬ ▬ ▬▬▬ ▬▬▬▬ ▬▬ ▬ ▬▬▬ ▬▬ ▬▬ ▬▬▬ ▬ ▬▬▬▬ ▬▬ ▬▬▬ ▬▬ ▬ ▬▬▬ ▬▬▬▬ ▬▬ ▬ ▬▬▬ ▬▬ ▬▬ ▬▬▬ ▬ ▬▬▬▬ ▬▬ ▬▬▬ ▬▬ ▬ ▬▬▬ ▬▬▬▬ ▬▬ ▬ ▬▬▬ ▬▬ ▬▬ ▬▬▬ ▬ ▬▬▬▬ ▬▬ ▬▬▬ ▬▬ ▬ ▬▬▬ ▬▬▬▬ ▬▬ ▬ ▬▬▬ ▬▬ ▬▬ ▬▬▬ ▬ ▬▬▬▬ ▬▬ ▬▬▬ ▬▬ ▬ ▬▬▬ ▬▬▬▬ ▬▬ ▬ ▬▬▬ ▬▬ ▬▬ ▬▬▬ ▬ ▬▬▬▬ ▬▬ ▬▬▬ ▬▬ ▬ ▬▬▬ ▬▬▬▬ ▬▬ ▬ ▬▬▬ ▬▬ ▬▬ ▬▬▬ ▬ ▬▬▬▬ ▬▬ ▬▬▬ ▬▬ ▬ ▬▬▬ ▬▬▬▬ ▬▬ ▬ ▬▬▬ ▬▬ ▬▬ ▬▬▬ ▬ ▬▬▬▬ ▬▬ ▬▬▬ ▬▬ ▬ ▬▬▬ ▬▬▬▬ ▬▬ ▬ ▬▬▬ ▬▬ ▬▬ ▬▬▬ ▬ ▬▬▬▬ ▬▬ ▬▬▬ ▬▬ ▬ ▬▬▬ ▬▬▬▬ ▬▬ ▬ ▬▬▬ ▬▬ ▬▬ ▬▬▬ ▬ ▬▬▬▬ ▬▬ ▬▬▬ ▬▬ ▬ ▬▬▬ ▬▬▬▬ ▬▬ ▬ ▬▬▬ ▬▬ ▬▬ ▬▬▬ ▬ ▬▬▬▬ ▬▬ ▬▬▬ ▬▬ ▬ ▬▬▬ ▬▬▬▬ ▬▬ ▬ ▬▬▬ ▬▬ ▬▬ ▬▬▬ ▬ ▬▬▬▬ ▬▬ ▬▬▬ ▬▬ ▬ ▬▬▬ ▬▬▬▬ ▬▬ ▬ ▬▬▬ ▬▬ ▬▬ ▬▬▬ ▬ ▬▬▬▬ ▬▬ ▬▬▬ ▬▬ ▬ ▬▬▬ ▬▬▬▬ ▬▬ ▬ ▬▬▬ ▬▬ ▬▬ ▬▬▬ ▬ ▬▬▬▬ ▬▬ ▬▬▬ ▬▬ ▬ ▬▬▬ ▬▬▬▬ ▬▬ ▬ ▬▬▬ ▬▬ ▬▬ ▬▬▬ ▬ ▬▬▬▬ ▬▬ ▬▬▬ ▬▬ ▬ ▬▬▬ ▬▬▬▬ ▬▬ ▬ ▬▬▬ ▬▬ ▬▬ ▬▬▬ ▬ ▬▬▬▬ ▬▬ ▬▬▬ ▬▬ ▬ ▬▬▬ ▬▬▬▬ ▬▬ ▬ ▬▬▬ ▬▬ ▬▬ ▬▬▬ ▬ ▬▬▬▬ ▬▬ ▬▬▬ ▬▬ ▬ ▬▬▬ ▬▬▬▬ ▬▬ ▬ ▬▬▬ ▬▬ ▬▬ ▬▬▬ ▬ ▬▬▬▬ ▬▬ ▬▬▬ ▬▬ ▬ ▬▬▬ ▬▬▬▬ ▬▬ ▬ ▬▬▬ ▬▬ ▬▬ ▬▬▬ ▬ ▬▬▬▬ ▬▬ ▬▬▬ ▬▬ ▬ ▬▬▬ ▬▬▬▬ ▬▬ ▬ ▬▬▬ ▬▬ ▬▬ ▬▬▬ ▬ ▬▬▬▬ ▬▬ ▬▬▬ ▬▬ ▬ ▬▬▬ ▬▬▬▬ ▬▬ ▬ ▬▬▬ ▬▬ ▬▬ ▬▬▬ ▬ ▬▬▬▬ ▬▬ ▬▬▬ ▬▬ ▬ ▬▬▬ ▬▬▬▬ ▬▬ ▬ ▬▬▬ ▬▬ ▬▬ ▬▬▬ ▬ ▬▬▬▬ ▬▬ ▬▬▬ ▬▬ ▬ ▬▬▬ ▬▬▬▬ ▬▬ ▬ ▬▬▬ ▬▬ ▬▬ ▬▬▬ ▬ ▬▬▬▬ ▬▬ ▬▬▬ ▬▬ ▬ ▬▬▬ ▬▬▬▬ ▬▬ ▬ ▬▬▬ ▬▬ ▬▬ ▬▬▬ ▬ ▬▬▬▬ ▬▬ ▬▬▬ ▬▬ ▬ ▬▬▬ ▬▬▬▬ ▬▬ ▬ ▬▬▬ ▬▬ ▬▬ ▬▬▬ ▬ ▬▬▬▬ ▬▬ ▬▬▬ ▬▬ ▬ ▬▬▬ ▬▬▬▬ ▬▬ ▬ ▬▬▬ ▬▬ ▬▬ ▬▬▬ ▬ ▬▬▬▬ ▬▬ ▬▬▬ ▬▬ ▬ ▬▬▬ ▬▬▬▬ ▬▬ ▬ ▬▬▬ ▬▬ ▬▬ ▬▬▬ ▬ ▬▬▬▬ ▬▬ ▬▬▬ ▬▬ ▬ ▬▬▬ ▬▬▬▬ ▬▬ ▬ ▬▬▬ ▬▬ ▬▬ ▬▬▬ ▬ ▬▬▬▬ ▬▬ ▬▬▬ ▬▬ ▬ ▬▬▬ ▬▬▬▬ ▬▬ ▬ ▬▬▬ ▬▬ ▬▬ ▬▬▬ ▬ ▬▬▬▬ ▬▬ ▬▬▬ ▬▬ ▬ ▬▬▬ ▬▬▬▬ ▬▬ ▬ ▬▬▬ ▬▬ ▬▬ ▬▬▬ ▬ ▬▬▬▬ ▬▬ ▬▬▬ ▬▬ ▬ ▬▬▬ ▬▬▬▬ ▬▬ ▬ ▬▬▬ ▬▬ ▬▬ ▬▬▬ ▬ ▬▬▬▬ ▬▬ ▬▬▬ ▬▬ ▬ ▬▬▬ ▬▬▬▬ ▬▬ ▬ ▬▬▬ ▬▬ ▬▬ ▬▬▬ ▬ ▬▬▬▬ ▬▬ ▬▬▬ ▬▬ ▬ ▬▬▬ ▬▬▬▬ ▬▬ ▬ ▬▬▬ ▬▬ ▬▬ ▬▬▬ ▬ ▬▬▬▬ ▬▬ ▬▬▬ ▬▬ ▬ ▬▬▬ ▬▬▬▬ ▬▬ ▬ ▬▬▬ ▬▬ ▬▬ ▬▬▬ ▬ ▬▬▬▬ ▬▬ ▬▬▬ ▬▬ ▬ ▬▬▬ ▬▬▬▬ ▬▬ ▬ ▬▬▬ ▬▬ ▬▬ ▬▬▬ ▬ ▬▬▬▬ ▬▬ ▬▬▬ ▬▬ ▬ ▬▬▬ ▬▬▬▬ ▬▬ ▬ ▬▬▬ ▬▬ ▬▬ ▬▬▬ ▬ ▬▬▬▬ ▬▬ ▬▬▬ ▬▬ ▬ ▬▬▬ ▬▬▬▬ ▬▬ ▬ ▬▬▬ ▬▬ ▬▬ ▬▬▬ ▬ ▬▬▬▬ ▬▬ ▬▬▬ ▬▬ ▬ ▬▬▬ ▬▬▬▬ ▬▬ ▬ ▬▬▬ ▬▬ ▬▬ ▬▬▬ ▬ ▬▬▬▬ ▬▬ ▬▬▬ ▬▬ ▬ ▬▬▬ ▬▬▬▬ ▬▬ ▬ ▬▬▬ ▬▬
बॉक्सिंग लीग में खिलाड़ियों
ने दिखाया दमखम
▬▬ ▬▬▬ ▬ ▬▬▬▬ ▬▬ ▬▬▬ ▬▬ ▬ ▬▬▬ ▬▬▬▬ ▬▬ ▬ ▬▬▬ ▬▬ ▬▬ ▬▬▬ ▬ ▬▬▬▬ ▬▬ ▬▬▬ ▬▬ ▬ ▬▬▬ ▬▬▬▬ ▬▬ ▬ ▬▬▬ ▬▬ ▬▬ ▬▬▬ ▬ ▬▬▬▬ ▬▬ ▬▬▬ ▬▬ ▬ ▬▬▬ ▬▬▬▬ ▬▬ ▬ ▬▬▬ ▬▬ ▬▬ ▬▬▬ ▬ ▬▬▬▬ ▬▬ ▬▬▬ ▬▬ ▬ ▬▬▬ ▬▬▬▬ ▬▬ ▬ ▬▬▬ ▬▬ ▬▬ ▬▬▬ ▬ ▬▬▬▬ ▬▬ ▬▬▬ ▬▬ ▬ ▬▬▬ ▬▬▬▬ ▬▬ ▬ ▬▬▬ ▬▬ ▬▬ ▬▬▬ ▬ ▬▬▬▬ ▬▬ ▬▬▬ ▬▬ ▬ ▬▬▬ ▬▬▬▬ ▬▬ ▬ ▬▬▬ ▬▬ ▬▬ ▬▬▬ ▬ ▬▬▬▬ ▬▬ ▬▬▬ ▬▬ ▬ ▬▬▬ ▬▬▬▬ ▬▬ ▬ ▬▬▬ ▬▬ ▬▬ ▬▬▬ ▬ ▬▬▬▬ ▬▬ ▬▬▬ ▬▬ ▬ ▬▬▬ ▬▬▬▬ ▬▬ ▬ ▬▬▬ ▬▬ ▬▬ ▬▬▬ ▬ ▬▬▬▬ ▬▬ ▬▬▬ ▬▬ ▬ ▬▬▬ ▬▬▬▬ ▬▬ ▬ ▬▬▬ ▬▬ ▬▬ ▬▬▬ ▬ ▬▬▬▬ ▬▬ ▬▬▬ ▬▬ ▬ ▬▬▬ ▬▬▬▬ ▬▬ ▬ ▬▬▬ ▬▬ ▬▬ ▬▬▬ ▬ ▬▬▬▬ ▬▬ ▬▬▬ ▬▬ ▬ ▬▬▬ ▬▬▬▬ ▬▬ ▬ ▬▬▬ ▬▬ ▬▬ ▬▬▬ ▬ ▬▬▬▬ ▬▬ ▬▬▬ ▬▬ ▬ ▬▬▬ ▬▬▬▬ ▬▬ ▬ ▬▬▬ ▬▬ ▬▬ ▬▬▬ ▬ ▬▬▬▬ ▬▬ ▬▬▬ ▬▬ ▬ ▬▬▬ ▬▬▬▬ ▬▬ ▬ ▬▬▬ ▬▬ ▬▬ ▬▬▬ ▬ ▬▬▬▬ ▬▬ ▬▬▬ ▬▬ ▬ ▬▬▬ ▬▬▬▬ ▬▬ ▬ ▬▬▬ ▬▬ ▬▬ ▬▬▬ ▬ ▬▬▬▬ ▬▬ ▬▬▬ ▬▬ ▬ ▬▬▬ ▬▬▬▬ ▬▬ ▬ ▬▬▬ ▬▬ ▬▬ ▬▬▬ ▬ ▬▬▬▬ ▬▬ ▬▬▬ ▬▬ ▬ ▬▬▬ ▬▬▬▬ ▬▬ ▬ ▬▬▬ ▬▬ ▬▬ ▬▬▬ ▬ ▬▬▬▬ ▬▬ ▬▬▬ ▬▬ ▬ ▬▬▬ ▬▬▬▬ ▬▬ ▬ ▬▬▬ ▬▬ ▬▬ ▬▬▬ ▬ ▬▬▬▬ ▬▬ ▬▬▬ ▬▬ ▬ ▬▬▬ ▬▬▬▬ ▬▬ ▬ ▬▬▬ ▬▬ ▬▬ ▬▬▬ ▬ ▬▬▬▬ ▬▬ ▬▬▬ ▬▬ ▬ ▬▬▬ ▬▬▬▬ ▬▬ ▬ ▬▬▬ ▬▬ ▬▬ ▬▬▬ ▬ ▬▬▬▬ ▬▬ ▬▬▬ ▬▬ ▬ ▬▬▬ ▬▬▬▬ ▬▬ ▬ ▬▬▬ ▬▬ ▬▬ ▬▬▬ ▬ ▬▬▬▬ ▬▬ ▬▬▬ ▬▬ ▬ ▬▬▬ ▬▬▬▬ ▬▬ ▬ ▬▬▬ ▬▬ ▬▬ ▬▬▬ ▬ ▬▬▬▬ ▬▬ ▬▬▬ ▬▬ ▬ ▬▬▬ ▬▬▬▬ ▬▬ ▬ ▬▬▬ ▬▬ ▬▬ ▬▬▬ ▬ ▬▬▬▬ ▬▬ ▬▬▬ ▬▬ ▬ ▬▬▬ ▬▬▬▬ ▬▬ ▬ ▬▬▬ ▬▬ ▬▬ ▬▬▬ ▬ ▬▬▬▬ ▬▬ ▬▬▬ ▬▬ ▬ ▬▬▬ ▬▬▬▬ ▬▬ ▬ ▬▬▬ ▬▬ ▬▬ ▬▬▬ ▬ ▬▬▬▬ ▬▬ ▬▬▬ ▬▬ ▬ ▬▬▬ ▬▬▬▬ ▬▬ ▬ ▬▬▬ ▬▬ ▬▬ ▬▬▬ ▬ ▬▬▬▬ ▬▬ ▬▬▬ ▬▬ ▬ ▬▬▬ ▬▬▬▬ ▬▬ ▬ ▬▬▬ ▬▬ ▬▬ ▬▬▬ ▬ ▬▬▬▬ ▬▬ ▬▬▬ ▬▬ ▬ ▬▬▬ ▬▬▬▬ ▬▬ ▬ ▬▬▬ ▬▬ ▬▬ ▬▬▬ ▬ ▬▬▬▬ ▬▬ ▬▬▬ ▬▬ ▬ ▬▬▬ ▬▬▬▬ ▬▬ ▬ ▬▬▬ ▬▬ ▬▬ ▬▬▬ ▬ ▬▬▬▬ ▬▬ ▬▬▬ ▬▬ ▬ ▬▬▬ ▬▬▬▬ ▬▬ ▬ ▬▬▬ ▬▬ ▬▬ ▬▬▬ ▬ ▬▬▬▬ ▬▬ ▬▬▬ ▬▬ ▬ ▬▬▬ ▬▬▬▬ ▬▬ ▬ ▬▬▬ ▬▬ ▬▬ ▬▬▬ ▬ ▬▬▬▬ ▬▬ ▬▬▬ ▬▬ ▬ ▬▬▬ ▬▬▬▬ ▬▬ ▬ ▬▬▬ ▬▬ ▬▬ ▬▬▬ ▬ ▬▬▬▬ ▬▬ ▬▬▬ ▬▬ ▬ ▬▬▬ ▬▬▬▬ ▬▬ ▬ ▬▬▬ ▬▬ ▬▬ ▬▬▬ ▬ ▬▬▬▬ ▬▬ ▬▬▬ ▬▬ ▬ ▬▬▬ ▬▬▬▬ ▬▬ ▬ ▬▬▬ ▬▬ ▬▬ ▬▬▬ ▬ ▬▬▬▬ ▬▬ ▬▬▬ ▬▬ ▬ ▬▬▬ ▬▬▬▬ ▬▬ ▬ ▬▬▬ ▬▬ ▬▬ ▬▬▬ ▬ ▬▬▬▬ ▬▬ ▬▬▬ ▬▬ ▬ ▬▬▬ ▬▬▬▬ ▬▬ ▬ ▬▬▬ ▬▬ ▬▬ ▬▬▬ ▬ ▬▬▬▬ ▬▬ ▬▬▬ ▬▬ ▬ ▬▬▬ ▬▬▬▬ ▬▬ ▬ ▬▬▬ ▬▬ ▬▬ ▬▬▬ ▬ ▬▬▬▬ ▬▬ ▬▬▬ ▬▬ ▬ ▬▬▬ ▬▬▬▬ ▬▬ ▬ ▬▬▬ ▬▬ ▬▬ ▬▬▬ ▬ ▬▬▬▬ ▬▬ ▬▬▬ ▬▬ ▬ ▬▬▬ ▬▬▬▬ ▬▬ ▬ ▬▬▬ ▬▬ ▬▬ ▬▬▬ ▬ ▬▬▬▬ ▬▬ ▬▬▬ ▬▬ ▬ ▬▬▬ ▬▬▬▬ ▬▬ ▬ ▬▬▬ ▬▬ ▬▬ ▬▬▬ ▬ ▬▬▬▬ ▬▬ ▬▬▬ ▬▬ ▬ ▬▬▬ ▬▬▬▬ ▬▬ ▬ ▬▬▬ ▬▬ ▬▬ ▬▬▬ ▬ ▬▬▬▬ ▬▬ ▬▬▬ ▬▬ ▬ ▬▬▬ ▬▬▬▬ ▬▬ ▬ ▬▬▬ ▬▬ ▬▬ ▬▬▬ ▬ ▬▬▬▬ ▬▬ ▬▬▬ ▬▬ ▬ ▬▬▬ ▬▬▬▬ ▬▬ ▬ ▬▬▬ ▬▬ ▬▬ ▬▬▬ ▬ ▬▬▬▬ ▬▬ ▬▬▬ ▬▬ ▬ ▬▬▬ ▬▬▬▬ ▬▬ ▬ ▬▬▬ ▬▬ ▬▬ ▬▬▬ ▬ ▬▬▬▬ ▬▬ ▬▬▬ ▬▬ ▬ ▬▬▬ ▬▬▬▬ ▬▬ ▬ ▬▬▬ ▬▬ ▬▬ ▬▬▬ ▬ ▬▬▬▬ ▬▬ ▬▬▬ ▬▬ ▬ ▬▬▬ ▬▬▬▬ ▬▬ ▬ ▬▬▬ ▬▬ ▬▬ ▬▬▬ ▬ ▬▬▬▬ ▬▬ ▬▬▬ ▬▬ ▬ ▬▬▬ ▬▬▬▬ ▬▬ ▬ ▬▬▬ ▬▬ ▬▬ ▬▬▬ ▬ ▬▬▬▬ ▬▬ ▬▬▬ ▬▬ ▬ ▬▬▬ ▬▬▬▬ ▬▬ ▬ ▬▬▬ ▬▬ ▬▬ ▬▬▬ ▬ ▬▬▬▬ ▬▬ ▬▬▬ ▬▬ ▬ ▬▬▬ ▬▬▬▬ ▬▬ ▬ ▬▬▬ ▬▬ ▬▬ ▬▬▬ ▬ ▬▬▬▬ ▬▬ ▬▬▬ ▬▬ ▬ ▬▬▬ ▬▬▬▬ ▬▬ ▬ ▬▬▬ ▬▬ ▬▬ ▬▬▬ ▬ ▬▬▬▬ ▬▬ ▬▬▬ ▬▬ ▬ ▬▬▬ ▬▬▬▬ ▬▬ ▬ ▬▬▬ ▬▬ ▬▬ ▬▬▬ ▬ ▬▬▬▬ ▬▬ ▬▬▬ ▬▬ ▬ ▬▬▬ ▬▬▬▬ ▬▬ ▬ ▬▬▬ ▬▬ ▬▬ ▬▬▬ ▬ ▬▬▬▬ ▬▬ ▬▬▬ ▬▬ ▬ ▬▬▬ ▬▬▬▬ ▬▬ ▬ ▬▬▬ ▬▬ ▬▬ ▬▬▬ ▬ ▬▬▬▬ ▬▬ ▬▬▬ ▬▬ ▬ ▬▬▬ ▬▬▬▬ ▬▬ ▬ ▬▬▬ ▬▬ ▬▬ ▬▬▬ ▬ ▬▬▬▬ ▬▬ ▬▬▬ ▬▬ ▬ ▬▬▬ ▬▬▬▬ ▬▬ ▬ ▬▬▬ ▬▬ ▬▬ ▬▬▬ ▬ ▬▬▬▬ ▬▬ ▬▬▬ ▬▬ ▬ ▬▬▬ ▬▬▬▬ ▬▬ ▬ ▬▬▬ ▬▬ ▬▬ ▬▬▬ ▬ ▬▬▬▬ ▬▬ ▬▬▬ ▬▬ ▬ ▬▬▬ ▬▬▬▬ ▬▬ ▬ ▬▬▬ ▬▬ ▬▬ ▬▬▬ ▬ ▬▬▬▬ ▬▬ ▬▬▬ ▬▬ ▬ ▬▬▬ ▬▬▬▬ ▬▬ ▬ ▬▬▬ ▬▬ ▬▬ ▬▬▬ ▬ ▬▬▬▬ ▬▬ ▬▬▬ ▬▬ ▬ ▬▬▬ ▬▬▬▬ ▬▬ ▬ ▬▬▬ ▬▬ ▬▬ ▬▬▬ ▬ ▬▬▬▬ ▬▬ ▬▬▬ ▬▬ ▬ ▬▬▬ ▬▬▬▬ ▬▬ ▬ ▬▬▬ ▬▬ ▬▬ ▬▬▬ ▬ ▬▬▬▬ ▬▬ ▬▬▬ ▬▬ ▬ ▬▬▬ ▬▬▬▬ ▬▬ ▬ ▬▬▬ ▬▬
▬▬ ▬▬▬ ▬ ▬▬▬▬ ▬▬ ▬▬▬ ▬▬ ▬ ▬▬▬ ▬▬▬▬ ▬▬ ▬ ▬▬▬ ▬▬ ▬▬ ▬▬▬ ▬ ▬▬▬▬ ▬▬ ▬▬▬ ▬▬ ▬ ▬▬▬ ▬▬▬▬ ▬▬ ▬ ▬▬▬ ▬▬ ▬▬ ▬▬▬ ▬ ▬▬▬▬ ▬▬ ▬▬▬ ▬▬ ▬ ▬▬▬ ▬▬▬▬ ▬▬ ▬ ▬▬▬ ▬▬ ▬▬ ▬▬▬ ▬ ▬▬▬▬ ▬▬ ▬▬▬ ▬▬ ▬ ▬▬▬ ▬▬▬▬ ▬▬ ▬ ▬▬▬ ▬▬ ▬▬ ▬▬▬ ▬ ▬▬▬▬ ▬▬ ▬▬▬ ▬▬ ▬ ▬▬▬ ▬▬▬▬ ▬▬ ▬ ▬▬▬ ▬▬ ▬▬ ▬▬▬ ▬ ▬▬▬▬ ▬▬ ▬▬▬ ▬▬ ▬ ▬▬▬ ▬▬▬▬ ▬▬ ▬ ▬▬▬ ▬▬ ▬▬ ▬▬▬ ▬ ▬▬▬▬ ▬▬ ▬▬▬ ▬▬ ▬ ▬▬▬ ▬▬▬▬ ▬▬ ▬ ▬▬▬ ▬▬ ▬▬ ▬▬▬ ▬ ▬▬▬▬ ▬▬ ▬▬▬ ▬▬ ▬ ▬▬▬ ▬▬▬▬ ▬▬ ▬ ▬▬▬ ▬▬ ▬▬ ▬▬▬ ▬ ▬▬▬▬ ▬▬ ▬▬▬ ▬▬ ▬ ▬▬▬ ▬▬▬▬ ▬▬ ▬ ▬▬▬ ▬▬ ▬▬ ▬▬▬ ▬ ▬▬▬▬ ▬▬ ▬▬▬ ▬▬ ▬ ▬▬▬ ▬▬▬▬ ▬▬ ▬ ▬▬▬ ▬▬ ▬▬ ▬▬▬ ▬ ▬▬▬▬ ▬▬ ▬▬▬ ▬▬ ▬ ▬▬▬ ▬▬▬▬ ▬▬ ▬ ▬▬▬ ▬▬ ▬▬ ▬▬▬ ▬ ▬▬▬▬ ▬▬ ▬▬▬ ▬▬ ▬ ▬▬▬ ▬▬▬▬ ▬▬ ▬ ▬▬▬ ▬▬ ▬▬ ▬▬▬ ▬ ▬▬▬▬ ▬▬ ▬▬▬ ▬▬ ▬ ▬▬▬ ▬▬▬▬ ▬▬ ▬ ▬▬▬ ▬▬ ▬▬ ▬▬▬ ▬ ▬▬▬▬ ▬▬ ▬▬▬ ▬▬ ▬ ▬▬▬ ▬▬▬▬ ▬▬ ▬ ▬▬▬ ▬▬ ▬▬ ▬▬▬ ▬ ▬▬▬▬ ▬▬ ▬▬▬ ▬▬ ▬ ▬▬▬ ▬▬▬▬ ▬▬ ▬ ▬▬▬ ▬▬ ▬▬ ▬▬▬ ▬ ▬▬▬▬ ▬▬ ▬▬▬ ▬▬ ▬ ▬▬▬ ▬▬▬▬ ▬▬ ▬ ▬▬▬ ▬▬ ▬▬ ▬▬▬ ▬ ▬▬▬▬ ▬▬ ▬▬▬ ▬▬ ▬ ▬▬▬ ▬▬▬▬ ▬▬ ▬ ▬▬▬ ▬▬ ▬▬ ▬▬▬ ▬ ▬▬▬▬ ▬▬ ▬▬▬ ▬▬ ▬ ▬▬▬ ▬▬▬▬ ▬▬ ▬ ▬▬▬ ▬▬ ▬▬ ▬▬▬ ▬ ▬▬▬▬ ▬▬ ▬▬▬ ▬▬ ▬ ▬▬▬ ▬▬▬▬ ▬▬ ▬ ▬▬▬ ▬▬ ▬▬ ▬▬▬ ▬ ▬▬▬▬ ▬▬ ▬▬▬ ▬▬ ▬ ▬▬▬ ▬▬▬▬ ▬▬ ▬ ▬▬▬ ▬▬ ▬▬ ▬▬▬ ▬ ▬▬▬▬ ▬▬ ▬▬▬ ▬▬ ▬ ▬▬▬ ▬▬▬▬ ▬▬ ▬ ▬▬▬ ▬▬ ▬▬ ▬▬▬ ▬ ▬▬▬▬ ▬▬ ▬▬▬ ▬▬ ▬ ▬▬▬ ▬▬▬▬ ▬▬ ▬ ▬▬▬ ▬▬ ▬▬ ▬▬▬ ▬ ▬▬▬▬ ▬▬ ▬▬▬ ▬▬ ▬ ▬▬▬ ▬▬▬▬ ▬▬ ▬ ▬▬▬ ▬▬ ▬▬ ▬▬▬ ▬ ▬▬▬▬ ▬▬ ▬▬▬ ▬▬ ▬ ▬▬▬ ▬▬▬▬ ▬▬ ▬ ▬▬▬ ▬▬ ▬▬ ▬▬▬ ▬ ▬▬▬▬ ▬▬ ▬▬▬ ▬▬ ▬ ▬▬▬ ▬▬▬▬ ▬▬ ▬ ▬▬▬ ▬▬ ▬▬ ▬▬▬ ▬ ▬▬▬▬ ▬▬ ▬▬▬ ▬▬ ▬ ▬▬▬ ▬▬▬▬ ▬▬ ▬ ▬▬▬ ▬▬ ▬▬ ▬▬▬ ▬ ▬▬▬▬ ▬▬ ▬▬▬ ▬▬ ▬ ▬▬▬ ▬▬▬▬ ▬▬ ▬ ▬▬▬ ▬▬ ▬▬ ▬▬▬ ▬ ▬▬▬▬ ▬▬ ▬▬▬ ▬▬ ▬ ▬▬▬ ▬▬▬▬ ▬▬ ▬ ▬▬▬ ▬▬ ▬▬ ▬▬▬ ▬ ▬▬▬▬ ▬▬ ▬▬▬ ▬▬ ▬ ▬▬▬ ▬▬▬▬ ▬▬ ▬ ▬▬▬ ▬▬ ▬▬ ▬▬▬ ▬ ▬▬▬▬ ▬▬ ▬▬▬ ▬▬ ▬ ▬▬▬ ▬▬▬▬ ▬▬ ▬ ▬▬▬ ▬▬ ▬▬ ▬▬▬ ▬ ▬▬▬▬ ▬▬ ▬▬▬ ▬▬ ▬ ▬▬▬ ▬▬▬▬ ▬▬ ▬ ▬▬▬ ▬▬ ▬▬ ▬▬▬ ▬ ▬▬▬▬ ▬▬ ▬▬▬ ▬▬ ▬ ▬▬▬ ▬▬▬▬ ▬▬ ▬ ▬▬▬ ▬▬ ▬▬ ▬▬▬ ▬ ▬▬▬▬ ▬▬ ▬▬▬ ▬▬ ▬ ▬▬▬ ▬▬▬▬ ▬▬ ▬ ▬▬▬ ▬▬ ▬▬ ▬▬▬ ▬ ▬▬▬▬ ▬▬ ▬▬▬ ▬▬ ▬ ▬▬▬ ▬▬▬▬ ▬▬ ▬ ▬▬▬ ▬▬ ▬▬ ▬▬▬ ▬ ▬▬▬▬ ▬▬ ▬▬▬ ▬▬ ▬ ▬▬▬ ▬▬▬▬ ▬▬ ▬ ▬▬▬ ▬▬ ▬▬ ▬▬▬ ▬ ▬▬▬▬ ▬▬ ▬▬▬ ▬▬ ▬ ▬▬▬ ▬▬▬▬ ▬▬ ▬ ▬▬▬ ▬▬ ▬▬ ▬▬▬ ▬ ▬▬▬▬ ▬▬ ▬▬▬ ▬▬ ▬ ▬▬▬ ▬▬▬▬ ▬▬ ▬ ▬▬▬ ▬▬ ▬▬ ▬▬▬ ▬ ▬▬▬▬ ▬▬ ▬▬▬ ▬▬ ▬ ▬▬▬ ▬▬▬▬ ▬▬ ▬ ▬▬▬ ▬▬ ▬▬ ▬▬▬ ▬ ▬▬▬▬ ▬▬ ▬▬▬ ▬▬ ▬ ▬▬▬ ▬▬▬▬ ▬▬ ▬ ▬▬▬ ▬▬ ▬▬ ▬▬▬ ▬ ▬▬▬▬ ▬▬ ▬▬▬ ▬▬ ▬ ▬▬▬ ▬▬▬▬ ▬▬ ▬ ▬▬▬ ▬▬ ▬▬ ▬▬▬ ▬ ▬▬▬▬ ▬▬ ▬▬▬ ▬▬ ▬ ▬▬▬ ▬▬▬▬ ▬▬ ▬ ▬▬▬ ▬▬ ▬▬ ▬▬▬ ▬ ▬▬▬▬ ▬▬ ▬▬▬ ▬▬ ▬ ▬▬▬ ▬▬▬▬ ▬▬ ▬ ▬▬▬ ▬▬ ▬▬ ▬▬▬ ▬ ▬▬▬▬ ▬▬ ▬▬▬ ▬▬ ▬ ▬▬▬ ▬▬▬▬ ▬▬ ▬ ▬▬▬ ▬▬ ▬▬ ▬▬▬ ▬ ▬▬▬▬ ▬▬ ▬▬▬ ▬▬ ▬ ▬▬▬ ▬▬▬▬ ▬▬ ▬ ▬▬▬ ▬▬ ▬▬ ▬▬▬ ▬ ▬▬▬▬ ▬▬ ▬▬▬ ▬▬ ▬ ▬▬▬ ▬▬▬▬ ▬▬ ▬ ▬▬▬ ▬▬ ▬▬ ▬▬▬ ▬ ▬▬▬▬ ▬▬ ▬▬▬ ▬▬ ▬ ▬▬▬ ▬▬▬▬ ▬▬ ▬ ▬▬▬ ▬▬ ▬▬ ▬▬▬ ▬ ▬▬▬▬ ▬▬ ▬▬▬ ▬▬ ▬ ▬▬▬ ▬▬▬▬ ▬▬ ▬ ▬▬▬ ▬▬ ▬▬ ▬▬▬ ▬ ▬▬▬▬ ▬▬ ▬▬▬ ▬▬ ▬ ▬▬▬ ▬▬▬▬ ▬▬ ▬ ▬▬▬ ▬▬ ▬▬ ▬▬▬ ▬ ▬▬▬▬ ▬▬ ▬▬▬ ▬▬ ▬ ▬▬▬ ▬▬▬▬ ▬▬ ▬ ▬▬▬ ▬▬ ▬▬ ▬▬▬ ▬ ▬▬▬▬ ▬▬ ▬▬▬ ▬▬ ▬ ▬▬▬ ▬▬▬▬ ▬▬ ▬ ▬▬▬ ▬▬ ▬▬ ▬▬▬ ▬ ▬▬▬▬ ▬▬ ▬▬▬ ▬▬ ▬ ▬▬▬ ▬▬▬▬ ▬▬ ▬ ▬▬▬ ▬▬ ▬▬ ▬▬▬ ▬ ▬▬▬▬ ▬▬ ▬▬▬ ▬▬ ▬ ▬▬▬ ▬▬▬▬ ▬▬ ▬ ▬▬▬ ▬▬ ▬▬ ▬▬▬ ▬ ▬▬▬▬ ▬▬ ▬▬▬ ▬▬ ▬ ▬▬▬ ▬▬▬▬ ▬▬ ▬ ▬▬▬ ▬▬ ▬▬ ▬▬▬ ▬ ▬▬▬▬ ▬▬ ▬▬▬ ▬▬ ▬ ▬▬▬ ▬▬▬▬ ▬▬ ▬ ▬▬▬ ▬▬ ▬▬ ▬▬▬ ▬ ▬▬▬▬ ▬▬ ▬▬▬ ▬▬ ▬ ▬▬▬ ▬▬▬▬ ▬▬ ▬ ▬▬▬ ▬▬ ▬▬ ▬▬▬ ▬ ▬▬▬▬ ▬▬ ▬▬▬ ▬▬ ▬ ▬▬▬ ▬▬▬▬ ▬▬ ▬ ▬▬▬ ▬▬ ▬▬ ▬▬▬ ▬ ▬▬▬▬ ▬▬ ▬▬▬ ▬▬ ▬ ▬▬▬ ▬▬▬▬ ▬▬ ▬ ▬▬▬ ▬▬ ▬▬ ▬▬▬ ▬ ▬▬▬▬ ▬▬ ▬▬▬ ▬▬ ▬ ▬▬▬ ▬▬▬▬ ▬▬ ▬ ▬▬▬ ▬▬ ▬▬ ▬▬▬ ▬ ▬▬▬▬ ▬▬ ▬▬▬ ▬▬ ▬ ▬▬▬ ▬▬▬▬ ▬▬ ▬ ▬▬▬ ▬▬ ▬▬ ▬▬▬ ▬ ▬▬▬▬ ▬▬ ▬▬▬ ▬▬ ▬ ▬▬▬ ▬▬▬▬ ▬▬ ▬ ▬▬▬ ▬▬
▬▬ ▬▬▬ ▬ ▬▬▬▬ ▬▬ ▬▬▬ ▬▬ ▬ ▬▬▬ ▬▬▬▬ ▬▬ ▬ ▬▬▬ ▬▬ ▬▬ ▬▬▬ ▬ ▬▬▬▬ ▬▬ ▬▬▬ ▬▬ ▬ ▬▬▬ ▬▬▬▬ ▬▬ ▬ ▬▬▬ ▬▬ ▬▬ ▬▬▬ ▬ ▬▬▬▬ ▬▬ ▬▬▬ ▬▬ ▬ ▬▬▬ ▬▬▬▬ ▬▬ ▬ ▬▬▬ ▬▬ ▬▬ ▬▬▬ ▬ ▬▬▬▬ ▬▬ ▬▬▬ ▬▬ ▬ ▬▬▬ ▬▬▬▬ ▬▬ ▬ ▬▬▬ ▬▬ ▬▬ ▬▬▬ ▬ ▬▬▬▬ ▬▬ ▬▬▬ ▬▬ ▬ ▬▬▬ ▬▬▬▬ ▬▬ ▬ ▬▬▬ ▬▬ ▬▬ ▬▬▬ ▬ ▬▬▬▬ ▬▬ ▬▬▬ ▬▬ ▬ ▬▬▬ ▬▬▬▬ ▬▬ ▬ ▬▬▬ ▬▬ ▬▬ ▬▬▬ ▬ ▬▬▬▬ ▬▬ ▬▬▬ ▬▬ ▬ ▬▬▬ ▬▬▬▬ ▬▬ ▬ ▬▬▬ ▬▬ ▬▬ ▬▬▬ ▬ ▬▬▬▬ ▬▬ ▬▬▬ ▬▬ ▬ ▬▬▬ ▬▬▬▬ ▬▬ ▬ ▬▬▬ ▬▬ ▬▬ ▬▬▬ ▬ ▬▬▬▬ ▬▬ ▬▬▬ ▬▬ ▬ ▬▬▬ ▬▬▬▬ ▬▬ ▬ ▬▬▬ ▬▬ ▬▬ ▬▬▬ ▬ ▬▬▬▬ ▬▬ ▬▬▬ ▬▬ ▬ ▬▬▬ ▬▬▬▬ ▬▬ ▬ ▬▬▬ ▬▬ ▬▬ ▬▬▬ ▬ ▬▬▬▬ ▬▬ ▬▬▬ ▬▬ ▬ ▬▬▬ ▬▬▬▬ ▬▬ ▬ ▬▬▬ ▬▬ ▬▬ ▬▬▬ ▬ ▬▬▬▬ ▬▬ ▬▬▬ ▬▬ ▬ ▬▬▬ ▬▬▬▬ ▬▬ ▬ ▬▬▬ ▬▬ ▬▬ ▬▬▬ ▬ ▬▬▬▬ ▬▬ ▬▬▬ ▬▬ ▬ ▬▬▬ ▬▬▬▬ ▬▬ ▬ ▬▬▬ ▬▬ ▬▬ ▬▬▬ ▬ ▬▬▬▬ ▬▬ ▬▬▬ ▬▬ ▬ ▬▬▬ ▬▬▬▬ ▬▬ ▬ ▬▬▬ ▬▬ ▬▬ ▬▬▬ ▬ ▬▬▬▬ ▬▬ ▬▬▬ ▬▬ ▬ ▬▬▬ ▬▬▬▬ ▬▬ ▬ ▬▬▬ ▬▬ ▬▬ ▬▬▬ ▬ ▬▬▬▬ ▬▬ ▬▬▬ ▬▬ ▬ ▬▬▬ ▬▬▬▬ ▬▬ ▬ ▬▬▬ ▬▬ ▬▬ ▬▬▬ ▬ ▬▬▬▬ ▬▬ ▬▬▬ ▬▬ ▬ ▬▬▬ ▬▬▬▬ ▬▬ ▬ ▬▬▬ ▬▬ ▬▬ ▬▬▬ ▬ ▬▬▬▬ ▬▬ ▬▬▬ ▬▬ ▬ ▬▬▬ ▬▬▬▬ ▬▬ ▬ ▬▬▬ ▬▬ ▬▬ ▬▬▬ ▬ ▬▬▬▬ ▬▬ ▬▬▬ ▬▬ ▬ ▬▬▬ ▬▬▬▬ ▬▬ ▬ ▬▬▬ ▬▬ ▬▬ ▬▬▬ ▬ ▬▬▬▬ ▬▬ ▬▬▬ ▬▬ ▬ ▬▬▬ ▬▬▬▬ ▬▬ ▬ ▬▬▬ ▬▬ ▬▬ ▬▬▬ ▬ ▬▬▬▬ ▬▬ ▬▬▬ ▬▬ ▬ ▬▬▬ ▬▬▬▬ ▬▬ ▬ ▬▬▬ ▬▬ ▬▬ ▬▬▬ ▬ ▬▬▬▬ ▬▬ ▬▬▬ ▬▬ ▬ ▬▬▬ ▬▬▬▬ ▬▬ ▬ ▬▬▬ ▬▬ ▬▬ ▬▬▬ ▬ ▬▬▬▬ ▬▬ ▬▬▬ ▬▬ ▬ ▬▬▬ ▬▬▬▬ ▬▬ ▬ ▬▬▬ ▬▬ ▬▬ ▬▬▬ ▬ ▬▬▬▬ ▬▬ ▬▬▬ ▬▬ ▬ ▬▬▬ ▬▬▬▬ ▬▬ ▬ ▬▬▬ ▬▬ ▬▬ ▬▬▬ ▬ ▬▬▬▬ ▬▬ ▬▬▬ ▬▬ ▬ ▬▬▬ ▬▬▬▬ ▬▬ ▬ ▬▬▬ ▬▬ ▬▬ ▬▬▬ ▬ ▬▬▬▬ ▬▬ ▬▬▬ ▬▬ ▬ ▬▬▬ ▬▬▬▬ ▬▬ ▬ ▬▬▬ ▬▬ ▬▬ ▬▬▬ ▬ ▬▬▬▬ ▬▬ ▬▬▬ ▬▬ ▬ ▬▬▬ ▬▬▬▬ ▬▬ ▬ ▬▬▬ ▬▬ ▬▬ ▬▬▬ ▬ ▬▬▬▬ ▬▬ ▬▬▬ ▬▬ ▬ ▬▬▬ ▬▬▬▬ ▬▬ ▬ ▬▬▬ ▬▬ ▬▬ ▬▬▬ ▬ ▬▬▬▬ ▬▬ ▬▬▬ ▬▬ ▬ ▬▬▬ ▬▬▬▬ ▬▬ ▬ ▬▬▬ ▬▬ ▬▬ ▬▬▬ ▬ ▬▬▬▬ ▬▬ ▬▬▬ ▬▬ ▬ ▬▬▬ ▬▬▬▬ ▬▬ ▬ ▬▬▬ ▬▬ ▬▬ ▬▬▬ ▬ ▬▬▬▬ ▬▬ ▬▬▬ ▬▬ ▬ ▬▬▬ ▬▬▬▬ ▬▬ ▬ ▬▬▬ ▬▬ ▬▬ ▬▬▬ ▬ ▬▬▬▬ ▬▬ ▬▬▬ ▬▬ ▬ ▬▬▬ ▬▬▬▬ ▬▬ ▬ ▬▬▬ ▬▬ ▬▬ ▬▬▬ ▬ ▬▬▬▬ ▬▬ ▬▬▬ ▬▬ ▬ ▬▬▬ ▬▬▬▬ ▬▬ ▬ ▬▬▬ ▬▬ ▬▬ ▬▬▬ ▬ ▬▬▬▬ ▬▬ ▬▬▬ ▬▬ ▬ ▬▬▬ ▬▬▬▬ ▬▬ ▬ ▬▬▬ ▬▬ ▬▬ ▬▬▬ ▬ ▬▬▬▬ ▬▬ ▬▬▬ ▬▬ ▬ ▬▬▬ ▬▬▬▬ ▬▬ ▬ ▬▬▬ ▬▬ ▬▬ ▬▬▬ ▬ ▬▬▬▬ ▬▬ ▬▬▬ ▬▬ ▬ ▬▬▬ ▬▬▬▬ ▬▬ ▬ ▬▬▬ ▬▬ ▬▬ ▬▬▬ ▬ ▬▬▬▬ ▬▬ ▬▬▬ ▬▬ ▬ ▬▬▬ ▬▬▬▬ ▬▬ ▬ ▬▬▬ ▬▬ ▬▬ ▬▬▬ ▬ ▬▬▬▬ ▬▬ ▬▬▬ ▬▬ ▬ ▬▬▬ ▬▬▬▬ ▬▬ ▬ ▬▬▬ ▬▬ ▬▬ ▬▬▬ ▬ ▬▬▬▬ ▬▬ ▬▬▬ ▬▬ ▬ ▬▬▬ ▬▬▬▬ ▬▬ ▬ ▬▬▬ ▬▬ ▬▬ ▬▬▬ ▬ ▬▬▬▬ ▬▬ ▬▬▬ ▬▬ ▬ ▬▬▬ ▬▬▬▬ ▬▬ ▬ ▬▬▬ ▬▬ ▬▬ ▬▬▬ ▬ ▬▬▬▬ ▬▬ ▬▬▬ ▬▬ ▬ ▬▬▬ ▬▬▬▬ ▬▬ ▬ ▬▬▬ ▬▬ ▬▬ ▬▬▬ ▬ ▬▬▬▬ ▬▬ ▬▬▬ ▬▬ ▬ ▬▬▬ ▬▬▬▬ ▬▬ ▬ ▬▬▬ ▬▬ ▬▬ ▬▬▬ ▬ ▬▬▬▬ ▬▬ ▬▬▬ ▬▬ ▬ ▬▬▬ ▬▬▬▬ ▬▬ ▬ ▬▬▬ ▬▬ ▬▬ ▬▬▬ ▬ ▬▬▬▬ ▬▬ ▬▬▬ ▬▬ ▬ ▬▬▬ ▬▬▬▬ ▬▬ ▬ ▬▬▬ ▬▬ ▬▬ ▬▬▬ ▬ ▬▬▬▬ ▬▬ ▬▬▬ ▬▬ ▬ ▬▬▬ ▬▬▬▬ ▬▬ ▬ ▬▬▬ ▬▬ ▬▬ ▬▬▬ ▬ ▬▬▬▬ ▬▬ ▬▬▬ ▬▬ ▬ ▬▬▬ ▬▬▬▬ ▬▬ ▬ ▬▬▬ ▬▬ ▬▬ ▬▬▬ ▬ ▬▬▬▬ ▬▬ ▬▬▬ ▬▬ ▬ ▬▬▬ ▬▬▬▬ ▬▬ ▬ ▬▬▬ ▬▬ ▬▬ ▬▬▬ ▬ ▬▬▬▬ ▬▬ ▬▬▬ ▬▬ ▬ ▬▬▬ ▬▬▬▬ ▬▬ ▬ ▬▬▬ ▬▬ ▬▬ ▬▬▬ ▬ ▬▬▬▬ ▬▬ ▬▬▬ ▬▬ ▬ ▬▬▬ ▬▬▬▬ ▬▬ ▬ ▬▬▬ ▬▬ ▬▬ ▬▬▬ ▬ ▬▬▬▬ ▬▬ ▬▬▬ ▬▬ ▬ ▬▬▬ ▬▬▬▬ ▬▬ ▬ ▬▬▬ ▬▬ ▬▬ ▬▬▬ ▬ ▬▬▬▬ ▬▬ ▬▬▬ ▬▬ ▬ ▬▬▬ ▬▬▬▬ ▬▬ ▬ ▬▬▬ ▬▬ ▬▬ ▬▬▬ ▬ ▬▬▬▬ ▬▬ ▬▬▬ ▬▬ ▬ ▬▬▬ ▬▬▬▬ ▬▬ ▬ ▬▬▬ ▬▬ ▬▬ ▬▬▬ ▬ ▬▬▬▬ ▬▬ ▬▬▬ ▬▬ ▬ ▬▬▬ ▬▬▬▬ ▬▬ ▬ ▬▬▬ ▬▬ ▬▬ ▬▬▬ ▬ ▬▬▬▬ ▬▬ ▬▬▬ ▬▬ ▬ ▬▬▬ ▬▬▬▬ ▬▬ ▬ ▬▬▬ ▬▬ ▬▬ ▬▬▬ ▬ ▬▬▬▬ ▬▬ ▬▬▬ ▬▬ ▬ ▬▬▬ ▬▬▬▬ ▬▬ ▬ ▬▬▬ ▬▬ ▬▬ ▬▬▬ ▬ ▬▬▬▬ ▬▬ ▬▬▬ ▬▬ ▬ ▬▬▬ ▬▬▬▬ ▬▬ ▬ ▬▬▬ ▬▬ ▬▬ ▬▬▬ ▬ ▬▬▬▬ ▬▬ ▬▬▬ ▬▬ ▬ ▬▬▬ ▬▬▬▬ ▬▬ ▬ ▬▬▬ ▬▬ ▬▬ ▬▬▬ ▬ ▬▬▬▬ ▬▬ ▬▬▬ ▬▬ ▬ ▬▬▬ ▬▬▬▬ ▬▬ ▬ ▬▬▬ ▬▬ ▬▬ ▬▬▬ ▬ ▬▬▬▬ ▬▬ ▬▬▬ ▬▬ ▬ ▬▬▬ ▬▬▬▬ ▬▬ ▬ ▬▬▬ ▬▬ ▬▬ ▬▬▬ ▬ ▬▬▬▬ ▬▬ ▬▬▬ ▬▬ ▬ ▬▬▬ ▬▬▬▬ ▬▬ ▬ ▬▬▬ ▬▬
ज्ञान बच्चों को सिखाता है सेवा
और संतोष का महत्व: हरीश
▬▬ ▬▬▬ ▬ ▬▬▬▬ ▬▬ ▬▬▬ ▬▬ ▬ ▬▬▬ ▬▬▬▬ ▬▬ ▬ ▬▬▬ ▬▬ ▬▬ ▬▬▬ ▬ ▬▬▬▬ ▬▬ ▬▬▬ ▬▬ ▬ ▬▬▬ ▬▬▬▬ ▬▬ ▬ ▬▬▬ ▬▬ ▬▬ ▬▬▬ ▬ ▬▬▬▬ ▬▬ ▬▬▬ ▬▬ ▬ ▬▬▬ ▬▬▬▬ ▬▬ ▬ ▬▬▬ ▬▬ ▬▬ ▬▬▬ ▬ ▬▬▬▬ ▬▬ ▬▬▬ ▬▬ ▬ ▬▬▬ ▬▬▬▬ ▬▬ ▬ ▬▬▬ ▬▬ ▬▬ ▬▬▬ ▬ ▬▬▬▬ ▬▬ ▬▬▬ ▬▬ ▬ ▬▬▬ ▬▬▬▬ ▬▬ ▬ ▬▬▬ ▬▬ ▬▬ ▬▬▬ ▬ ▬▬▬▬ ▬▬ ▬▬▬ ▬▬ ▬ ▬▬▬ ▬▬▬▬ ▬▬ ▬ ▬▬▬ ▬▬ ▬▬ ▬▬▬ ▬ ▬▬▬▬ ▬▬ ▬▬▬ ▬▬ ▬ ▬▬▬ ▬▬▬▬ ▬▬ ▬ ▬▬▬ ▬▬ ▬▬ ▬▬▬ ▬ ▬▬▬▬ ▬▬ ▬▬▬ ▬▬ ▬ ▬▬▬ ▬▬▬▬ ▬▬ ▬ ▬▬▬ ▬▬ ▬▬ ▬▬▬ ▬ ▬▬▬▬ ▬▬ ▬▬▬ ▬▬ ▬ ▬▬▬ ▬▬▬▬ ▬▬ ▬ ▬▬▬ ▬▬ ▬▬ ▬▬▬ ▬ ▬▬▬▬ ▬▬ ▬▬▬ ▬▬ ▬ ▬▬▬ ▬▬▬▬ ▬▬ ▬ ▬▬▬ ▬▬ ▬▬ ▬▬▬ ▬ ▬▬▬▬ ▬▬ ▬▬▬ ▬▬ ▬ ▬▬▬ ▬▬▬▬ ▬▬ ▬ ▬▬▬ ▬▬ ▬▬ ▬▬▬ ▬ ▬▬▬▬ ▬▬ ▬▬▬ ▬▬ ▬ ▬▬▬ ▬▬▬▬ ▬▬ ▬ ▬▬▬ ▬▬ ▬▬ ▬▬▬ ▬ ▬▬▬▬ ▬▬ ▬▬▬ ▬▬ ▬ ▬▬▬ ▬▬▬▬ ▬▬ ▬ ▬▬▬ ▬▬ ▬▬ ▬▬▬ ▬ ▬▬▬▬ ▬▬ ▬▬▬ ▬▬ ▬ ▬▬▬ ▬▬▬▬ ▬▬ ▬ ▬▬▬ ▬▬ ▬▬ ▬▬▬ ▬ ▬▬▬▬ ▬▬ ▬▬▬ ▬▬ ▬ ▬▬▬ ▬▬▬▬ ▬▬ ▬ ▬▬▬ ▬▬ ▬▬ ▬▬▬ ▬ ▬▬▬▬ ▬▬ ▬▬▬ ▬▬ ▬ ▬▬▬ ▬▬▬▬ ▬▬ ▬ ▬▬▬ ▬▬ ▬▬ ▬▬▬ ▬ ▬▬▬▬ ▬▬ ▬▬▬ ▬▬ ▬ ▬▬▬ ▬▬▬▬ ▬▬ ▬ ▬▬▬ ▬▬ ▬▬ ▬▬▬ ▬ ▬▬▬▬ ▬▬ ▬▬▬ ▬▬ ▬ ▬▬▬ ▬▬▬▬ ▬▬ ▬ ▬▬▬ ▬▬ ▬▬ ▬▬▬ ▬ ▬▬▬▬ ▬▬ ▬▬▬ ▬▬ ▬ ▬▬▬ ▬▬▬▬ ▬▬ ▬ ▬▬▬ ▬▬ ▬▬ ▬▬▬ ▬ ▬▬▬▬ ▬▬ ▬▬▬ ▬▬ ▬ ▬▬▬ ▬▬▬▬ ▬▬ ▬ ▬▬▬ ▬▬ ▬▬ ▬▬▬ ▬ ▬▬▬▬ ▬▬ ▬▬▬ ▬▬ ▬ ▬▬▬ ▬▬▬▬ ▬▬ ▬ ▬▬▬ ▬▬ ▬▬ ▬▬▬ ▬ ▬▬▬▬ ▬▬ ▬▬▬ ▬▬ ▬ ▬▬▬ ▬▬▬▬ ▬▬ ▬ ▬▬▬ ▬▬ ▬▬ ▬▬▬ ▬ ▬▬▬▬ ▬▬ ▬▬▬ ▬▬ ▬ ▬▬▬ ▬▬▬▬ ▬▬ ▬ ▬▬▬ ▬▬ ▬▬ ▬▬▬ ▬ ▬▬▬▬ ▬▬ ▬▬▬ ▬▬ ▬ ▬▬▬ ▬▬▬▬ ▬▬ ▬ ▬▬▬ ▬▬ ▬▬ ▬▬▬ ▬ ▬▬▬▬ ▬▬ ▬▬▬ ▬▬ ▬ ▬▬▬ ▬▬▬▬ ▬▬ ▬ ▬▬▬ ▬▬ ▬▬ ▬▬▬ ▬ ▬▬▬▬ ▬▬ ▬▬▬ ▬▬ ▬ ▬▬▬ ▬▬▬▬ ▬▬ ▬ ▬▬▬ ▬▬ ▬▬ ▬▬▬ ▬ ▬▬▬▬ ▬▬ ▬▬▬ ▬▬ ▬ ▬▬▬ ▬▬▬▬ ▬▬ ▬ ▬▬▬ ▬▬ ▬▬ ▬▬▬ ▬ ▬▬▬▬ ▬▬ ▬▬▬ ▬▬ ▬ ▬▬▬ ▬▬▬▬ ▬▬ ▬ ▬▬▬ ▬▬ ▬▬ ▬▬▬ ▬ ▬▬▬▬ ▬▬ ▬▬▬ ▬▬ ▬ ▬▬▬ ▬▬▬▬ ▬▬ ▬ ▬▬▬ ▬▬ ▬▬ ▬▬▬ ▬ ▬▬▬▬ ▬▬ ▬▬▬ ▬▬ ▬ ▬▬▬ ▬▬▬▬ ▬▬ ▬ ▬▬▬ ▬▬ ▬▬ ▬▬▬ ▬ ▬▬▬▬ ▬▬ ▬▬▬ ▬▬ ▬ ▬▬▬ ▬▬▬▬ ▬▬ ▬ ▬▬▬ ▬▬ ▬▬ ▬▬▬ ▬ ▬▬▬▬ ▬▬ ▬▬▬ ▬▬ ▬ ▬▬▬ ▬▬▬▬ ▬▬ ▬ ▬▬▬ ▬▬ ▬▬ ▬▬▬ ▬ ▬▬▬▬ ▬▬ ▬▬▬ ▬▬ ▬ ▬▬▬ ▬▬▬▬ ▬▬ ▬ ▬▬▬ ▬▬ ▬▬ ▬▬▬ ▬ ▬▬▬▬ ▬▬ ▬▬▬ ▬▬ ▬ ▬▬▬ ▬▬▬▬ ▬▬ ▬ ▬▬▬ ▬▬ ▬▬ ▬▬▬ ▬ ▬▬▬▬ ▬▬ ▬▬▬ ▬▬ ▬ ▬▬▬ ▬▬▬▬ ▬▬ ▬ ▬▬▬ ▬▬ ▬▬ ▬▬▬ ▬ ▬▬▬▬ ▬▬ ▬▬▬ ▬▬ ▬ ▬▬▬ ▬▬▬▬ ▬▬ ▬ ▬▬▬ ▬▬ ▬▬ ▬▬▬ ▬ ▬▬▬▬ ▬▬ ▬▬▬ ▬▬ ▬ ▬▬▬ ▬▬▬▬ ▬▬ ▬ ▬▬▬ ▬▬ ▬▬ ▬▬▬ ▬ ▬▬▬▬ ▬▬ ▬▬▬ ▬▬ ▬ ▬▬▬ ▬▬▬▬ ▬▬ ▬ ▬▬▬ ▬▬ ▬▬ ▬▬▬ ▬ ▬▬▬▬ ▬▬ ▬▬▬ ▬▬ ▬ ▬▬▬ ▬▬▬▬ ▬▬ ▬ ▬▬▬ ▬▬ ▬▬ ▬▬▬ ▬ ▬▬▬▬ ▬▬ ▬▬▬ ▬▬ ▬ ▬▬▬ ▬▬▬▬ ▬▬ ▬ ▬▬▬ ▬▬ ▬▬ ▬▬▬ ▬ ▬▬▬▬ ▬▬ ▬▬▬ ▬▬ ▬ ▬▬▬ ▬▬▬▬ ▬▬ ▬ ▬▬▬ ▬▬ ▬▬ ▬▬▬ ▬ ▬▬▬▬ ▬▬ ▬▬▬ ▬▬ ▬ ▬▬▬ ▬▬▬▬ ▬▬ ▬ ▬▬▬ ▬▬ ▬▬ ▬▬▬ ▬ ▬▬▬▬ ▬▬ ▬▬▬ ▬▬ ▬ ▬▬▬ ▬▬▬▬ ▬▬ ▬ ▬▬▬ ▬▬ ▬▬ ▬▬▬ ▬ ▬▬▬▬ ▬▬ ▬▬▬ ▬▬ ▬ ▬▬▬ ▬▬▬▬ ▬▬ ▬ ▬▬▬ ▬▬ ▬▬ ▬▬▬ ▬ ▬▬▬▬ ▬▬ ▬▬▬ ▬▬ ▬ ▬▬▬ ▬▬▬▬ ▬▬ ▬ ▬▬▬ ▬▬ ▬▬ ▬▬▬ ▬ ▬▬▬▬ ▬▬ ▬▬▬ ▬▬ ▬ ▬▬▬ ▬▬▬▬ ▬▬ ▬ ▬▬▬ ▬▬ ▬▬ ▬▬▬ ▬ ▬▬▬▬ ▬▬ ▬▬▬ ▬▬ ▬ ▬▬▬ ▬▬▬▬ ▬▬ ▬ ▬▬▬ ▬▬ ▬▬ ▬▬▬ ▬ ▬▬▬▬ ▬▬ ▬▬▬ ▬▬ ▬ ▬▬▬ ▬▬▬▬ ▬▬ ▬ ▬▬▬ ▬▬ ▬▬ ▬▬▬ ▬ ▬▬▬▬ ▬▬ ▬▬▬ ▬▬ ▬ ▬▬▬ ▬▬▬▬ ▬▬ ▬ ▬▬▬ ▬▬ ▬▬ ▬▬▬ ▬ ▬▬▬▬ ▬▬ ▬▬▬ ▬▬ ▬ ▬▬▬ ▬▬▬▬ ▬▬ ▬ ▬▬▬ ▬▬ ▬▬ ▬▬▬ ▬ ▬▬▬▬ ▬▬ ▬▬▬ ▬▬ ▬ ▬▬▬ ▬▬▬▬ ▬▬ ▬ ▬▬▬ ▬▬ ▬▬ ▬▬▬ ▬ ▬▬▬▬ ▬▬ ▬▬▬ ▬▬ ▬ ▬▬▬ ▬▬▬▬ ▬▬ ▬ ▬▬▬ ▬▬ ▬▬ ▬▬▬ ▬ ▬▬▬▬ ▬▬ ▬▬▬ ▬▬ ▬ ▬▬▬ ▬▬▬▬ ▬▬ ▬ ▬▬▬ ▬▬ ▬▬ ▬▬▬ ▬ ▬▬▬▬ ▬▬ ▬▬▬ ▬▬ ▬ ▬▬▬ ▬▬▬▬ ▬▬ ▬ ▬▬▬ ▬▬ ▬▬ ▬▬▬ ▬ ▬▬▬▬ ▬▬ ▬▬▬ ▬▬ ▬ ▬▬▬ ▬▬▬▬ ▬▬ ▬ ▬▬▬ ▬▬ ▬▬ ▬▬▬ ▬ ▬▬▬▬ ▬▬ ▬▬▬ ▬▬ ▬ ▬▬▬ ▬▬▬▬ ▬▬ ▬ ▬▬▬ ▬▬ ▬▬ ▬▬▬ ▬ ▬▬▬▬ ▬▬ ▬▬▬ ▬▬ ▬ ▬▬▬ ▬▬▬▬ ▬▬ ▬ ▬▬▬ ▬▬ ▬▬ ▬▬▬ ▬ ▬▬▬▬ ▬▬ ▬▬▬ ▬▬ ▬ ▬▬▬ ▬▬▬▬ ▬▬ ▬ ▬▬▬ ▬▬ ▬▬ ▬▬▬ ▬ ▬▬▬▬ ▬▬ ▬▬▬ ▬▬ ▬ ▬▬▬ ▬▬▬▬ ▬▬ ▬ ▬▬▬ ▬▬ ▬▬ ▬▬▬ ▬ ▬▬▬▬ ▬▬ ▬▬▬ ▬▬ ▬ ▬▬▬ ▬▬▬▬ ▬▬ ▬ ▬▬▬ ▬▬
▬▬ ▬▬▬ ▬ ▬▬▬▬ ▬▬ ▬▬▬ ▬▬ ▬ ▬▬▬ ▬▬▬▬ ▬▬ ▬ ▬▬▬ ▬▬ ▬▬ ▬▬▬ ▬ ▬▬▬▬ ▬▬ ▬▬▬ ▬▬ ▬ ▬▬▬ ▬▬▬▬ ▬▬ ▬ ▬▬▬ ▬▬ ▬▬ ▬▬▬ ▬ ▬▬▬▬ ▬▬ ▬▬▬ ▬▬ ▬ ▬▬▬ ▬▬▬▬ ▬▬ ▬ ▬▬▬ ▬▬ ▬▬ ▬▬▬ ▬ ▬▬▬▬ ▬▬ ▬▬▬ ▬▬ ▬ ▬▬▬ ▬▬▬▬ ▬▬ ▬ ▬▬▬ ▬▬ ▬▬ ▬▬▬ ▬ ▬▬▬▬ ▬▬ ▬▬▬ ▬▬ ▬ ▬▬▬ ▬▬▬▬ ▬▬ ▬ ▬▬▬ ▬▬ ▬▬ ▬▬▬ ▬ ▬▬▬▬ ▬▬ ▬▬▬ ▬▬ ▬ ▬▬▬ ▬▬▬▬ ▬▬ ▬ ▬▬▬ ▬▬ ▬▬ ▬▬▬ ▬ ▬▬▬▬ ▬▬ ▬▬▬ ▬▬ ▬ ▬▬▬ ▬▬▬▬ ▬▬ ▬ ▬▬▬ ▬▬ ▬▬ ▬▬▬ ▬ ▬▬▬▬ ▬▬ ▬▬▬ ▬▬ ▬ ▬▬▬ ▬▬▬▬ ▬▬ ▬ ▬▬▬ ▬▬ ▬▬ ▬▬▬ ▬ ▬▬▬▬ ▬▬ ▬▬▬ ▬▬ ▬ ▬▬▬ ▬▬▬▬ ▬▬ ▬ ▬▬▬ ▬▬ ▬▬ ▬▬▬ ▬ ▬▬▬▬ ▬▬ ▬▬▬ ▬▬ ▬ ▬▬▬ ▬▬▬▬ ▬▬ ▬ ▬▬▬ ▬▬ ▬▬ ▬▬▬ ▬ ▬▬▬▬ ▬▬ ▬▬▬ ▬▬ ▬ ▬▬▬ ▬▬▬▬ ▬▬ ▬ ▬▬▬ ▬▬ ▬▬ ▬▬▬ ▬ ▬▬▬▬ ▬▬ ▬▬▬ ▬▬ ▬ ▬▬▬ ▬▬▬▬ ▬▬ ▬ ▬▬▬ ▬▬ ▬▬ ▬▬▬ ▬ ▬▬▬▬ ▬▬ ▬▬▬ ▬▬ ▬ ▬▬▬ ▬▬▬▬ ▬▬ ▬ ▬▬▬ ▬▬ ▬▬ ▬▬▬ ▬ ▬▬▬▬ ▬▬ ▬▬▬ ▬▬ ▬ ▬▬▬ ▬▬▬▬ ▬▬ ▬ ▬▬▬ ▬▬ ▬▬ ▬▬▬ ▬ ▬▬▬▬ ▬▬ ▬▬▬ ▬▬ ▬ ▬▬▬ ▬▬▬▬ ▬▬ ▬ ▬▬▬ ▬▬ ▬▬ ▬▬▬ ▬ ▬▬▬▬ ▬▬ ▬▬▬ ▬▬ ▬ ▬▬▬ ▬▬▬▬ ▬▬ ▬ ▬▬▬ ▬▬ ▬▬ ▬▬▬ ▬ ▬▬▬▬ ▬▬ ▬▬▬ ▬▬ ▬ ▬▬▬ ▬▬▬▬ ▬▬ ▬ ▬▬▬ ▬▬ ▬▬ ▬▬▬ ▬ ▬▬▬▬ ▬▬ ▬▬▬ ▬▬ ▬ ▬▬▬ ▬▬▬▬ ▬▬ ▬ ▬▬▬ ▬▬ ▬▬ ▬▬▬ ▬ ▬▬▬▬ ▬▬ ▬▬▬ ▬▬ ▬ ▬▬▬ ▬▬▬▬ ▬▬ ▬ ▬▬▬ ▬▬ ▬▬ ▬▬▬ ▬ ▬▬▬▬ ▬▬ ▬▬▬ ▬▬ ▬ ▬▬▬ ▬▬▬▬ ▬▬ ▬ ▬▬▬ ▬▬ ▬▬ ▬▬▬ ▬ ▬▬▬▬ ▬▬ ▬▬▬ ▬▬ ▬ ▬▬▬ ▬▬▬▬ ▬▬ ▬ ▬▬▬ ▬▬ ▬▬ ▬▬▬ ▬ ▬▬▬▬ ▬▬ ▬▬▬ ▬▬ ▬ ▬▬▬ ▬▬▬▬ ▬▬ ▬ ▬▬▬ ▬▬ ▬▬ ▬▬▬ ▬ ▬▬▬▬ ▬▬ ▬▬▬ ▬▬ ▬ ▬▬▬ ▬▬▬▬ ▬▬ ▬ ▬▬▬ ▬▬ ▬▬ ▬▬▬ ▬ ▬▬▬▬ ▬▬ ▬▬▬ ▬▬ ▬ ▬▬▬ ▬▬▬▬ ▬▬ ▬ ▬▬▬ ▬▬ ▬▬ ▬▬▬ ▬ ▬▬▬▬ ▬▬ ▬▬▬ ▬▬ ▬ ▬▬▬ ▬▬▬▬ ▬▬ ▬ ▬▬▬ ▬▬ ▬▬ ▬▬▬ ▬ ▬▬▬▬ ▬▬ ▬▬▬ ▬▬ ▬ ▬▬▬ ▬▬▬▬ ▬▬ ▬ ▬▬▬ ▬▬ ▬▬ ▬▬▬ ▬ ▬▬▬▬ ▬▬ ▬▬▬ ▬▬ ▬ ▬▬▬ ▬▬▬▬ ▬▬ ▬ ▬▬▬ ▬▬ ▬▬ ▬▬▬ ▬ ▬▬▬▬ ▬▬ ▬▬▬ ▬▬ ▬ ▬▬▬ ▬▬▬▬ ▬▬ ▬ ▬▬▬ ▬▬ ▬▬ ▬▬▬ ▬ ▬▬▬▬ ▬▬ ▬▬▬ ▬▬ ▬ ▬▬▬ ▬▬▬▬ ▬▬ ▬ ▬▬▬ ▬▬ ▬▬ ▬▬▬ ▬ ▬▬▬▬ ▬▬ ▬▬▬ ▬▬ ▬ ▬▬▬ ▬▬▬▬ ▬▬ ▬ ▬▬▬ ▬▬ ▬▬ ▬▬▬ ▬ ▬▬▬▬ ▬▬ ▬▬▬ ▬▬ ▬ ▬▬▬ ▬▬▬▬ ▬▬ ▬ ▬▬▬ ▬▬ ▬▬ ▬▬▬ ▬ ▬▬▬▬ ▬▬ ▬▬▬ ▬▬ ▬ ▬▬▬ ▬▬▬▬ ▬▬ ▬ ▬▬▬ ▬▬ ▬▬ ▬▬▬ ▬ ▬▬▬▬ ▬▬ ▬▬▬ ▬▬ ▬ ▬▬▬ ▬▬▬▬ ▬▬ ▬ ▬▬▬ ▬▬ ▬▬ ▬▬▬ ▬ ▬▬▬▬ ▬▬ ▬▬▬ ▬▬ ▬ ▬▬▬ ▬▬▬▬ ▬▬ ▬ ▬▬▬ ▬▬ ▬▬ ▬▬▬ ▬ ▬▬▬▬ ▬▬ ▬▬▬ ▬▬ ▬ ▬▬▬ ▬▬▬▬ ▬▬ ▬ ▬▬▬ ▬▬ ▬▬ ▬▬▬ ▬ ▬▬▬▬ ▬▬ ▬▬▬ ▬▬ ▬ ▬▬▬ ▬▬▬▬ ▬▬ ▬ ▬▬▬ ▬▬ ▬▬ ▬▬▬ ▬ ▬▬▬▬ ▬▬ ▬▬▬ ▬▬ ▬ ▬▬▬ ▬▬▬▬ ▬▬ ▬ ▬▬▬ ▬▬ ▬▬ ▬▬▬ ▬ ▬▬▬▬ ▬▬ ▬▬▬ ▬▬ ▬ ▬▬▬ ▬▬▬▬ ▬▬ ▬ ▬▬▬ ▬▬ ▬▬ ▬▬▬ ▬ ▬▬▬▬ ▬▬ ▬▬▬ ▬▬ ▬ ▬▬▬ ▬▬▬▬ ▬▬ ▬ ▬▬▬ ▬▬ ▬▬ ▬▬▬ ▬ ▬▬▬▬ ▬▬ ▬▬▬ ▬▬ ▬ ▬▬▬ ▬▬▬▬ ▬▬ ▬ ▬▬▬ ▬▬ ▬▬ ▬▬▬ ▬ ▬▬▬▬ ▬▬ ▬▬▬ ▬▬ ▬ ▬▬▬ ▬▬▬▬ ▬▬ ▬ ▬▬▬ ▬▬ ▬▬ ▬▬▬ ▬ ▬▬▬▬ ▬▬ ▬▬▬ ▬▬ ▬ ▬▬▬ ▬▬▬▬ ▬▬ ▬ ▬▬▬ ▬▬ ▬▬ ▬▬▬ ▬ ▬▬▬▬ ▬▬ ▬▬▬ ▬▬ ▬ ▬▬▬ ▬▬▬▬ ▬▬ ▬ ▬▬▬ ▬▬ ▬▬ ▬▬▬ ▬ ▬▬▬▬ ▬▬ ▬▬▬ ▬▬ ▬ ▬▬▬ ▬▬▬▬ ▬▬ ▬ ▬▬▬ ▬▬ ▬▬ ▬▬▬ ▬ ▬▬▬▬ ▬▬ ▬▬▬ ▬▬ ▬ ▬▬▬ ▬▬▬▬ ▬▬ ▬ ▬▬▬ ▬▬ ▬▬ ▬▬▬ ▬ ▬▬▬▬ ▬▬ ▬▬▬ ▬▬ ▬ ▬▬▬ ▬▬▬▬ ▬▬ ▬ ▬▬▬ ▬▬ ▬▬ ▬▬▬ ▬ ▬▬▬▬ ▬▬ ▬▬▬ ▬▬ ▬ ▬▬▬ ▬▬▬▬ ▬▬ ▬ ▬▬▬ ▬▬ ▬▬ ▬▬▬ ▬ ▬▬▬▬ ▬▬ ▬▬▬ ▬▬ ▬ ▬▬▬ ▬▬▬▬ ▬▬ ▬ ▬▬▬ ▬▬ ▬▬ ▬▬▬ ▬ ▬▬▬▬ ▬▬ ▬▬▬ ▬▬ ▬ ▬▬▬ ▬▬▬▬ ▬▬ ▬ ▬▬▬ ▬▬ ▬▬ ▬▬▬ ▬ ▬▬▬▬ ▬▬ ▬▬▬ ▬▬ ▬ ▬▬▬ ▬▬▬▬ ▬▬ ▬ ▬▬▬ ▬▬ ▬▬ ▬▬▬ ▬ ▬▬▬▬ ▬▬ ▬▬▬ ▬▬ ▬ ▬▬▬ ▬▬▬▬ ▬▬ ▬ ▬▬▬ ▬▬ ▬▬ ▬▬▬ ▬ ▬▬▬▬ ▬▬ ▬▬▬ ▬▬ ▬ ▬▬▬ ▬▬▬▬ ▬▬ ▬ ▬▬▬ ▬▬ ▬▬ ▬▬▬ ▬ ▬▬▬▬ ▬▬ ▬▬▬ ▬▬ ▬ ▬▬▬ ▬▬▬▬ ▬▬ ▬ ▬▬▬ ▬▬ ▬▬ ▬▬▬ ▬ ▬▬▬▬ ▬▬ ▬▬▬ ▬▬ ▬ ▬▬▬ ▬▬▬▬ ▬▬ ▬ ▬▬▬ ▬▬ ▬▬ ▬▬▬ ▬ ▬▬▬▬ ▬▬ ▬▬▬ ▬▬ ▬ ▬▬▬ ▬▬▬▬ ▬▬ ▬ ▬▬▬ ▬▬ ▬▬ ▬▬▬ ▬ ▬▬▬▬ ▬▬ ▬▬▬ ▬▬ ▬ ▬▬▬ ▬▬▬▬ ▬▬ ▬ ▬▬▬ ▬▬ ▬▬ ▬▬▬ ▬ ▬▬▬▬ ▬▬ ▬▬▬ ▬▬ ▬ ▬▬▬ ▬▬▬▬ ▬▬ ▬ ▬▬▬ ▬▬ ▬▬ ▬▬▬ ▬ ▬▬▬▬ ▬▬ ▬▬▬ ▬▬ ▬ ▬▬▬ ▬▬▬▬ ▬▬ ▬ ▬▬▬ ▬▬ ▬▬ ▬▬▬ ▬ ▬▬▬▬ ▬▬ ▬▬▬ ▬▬ ▬ ▬▬▬ ▬▬▬▬ ▬▬ ▬ ▬▬▬ ▬▬ ▬▬ ▬▬▬ ▬ ▬▬▬▬ ▬▬ ▬▬▬ ▬▬ ▬ ▬▬▬ ▬▬▬▬ ▬▬ ▬ ▬▬▬ ▬▬
शिक्षा की अलख जगाने पहुंचे एलओसी के निकट
■ यह कार्य प्रतिनिधियों संग
एनजीओ, और सेना के
अधिकारी शामिल
▬▬ ▬▬▬ ▬ ▬▬▬▬ ▬▬ ▬▬▬ ▬▬ ▬ ▬▬▬ ▬▬▬▬ ▬▬ ▬ ▬▬▬ ▬▬ ▬▬ ▬▬▬ ▬ ▬▬▬▬ ▬▬ ▬▬▬ ▬▬ ▬ ▬▬▬ ▬▬▬▬ ▬▬ ▬ ▬▬▬ ▬▬ ▬▬ ▬▬▬ ▬ ▬▬▬▬ ▬▬ ▬▬▬ ▬▬ ▬ ▬▬▬ ▬▬▬▬ ▬▬ ▬ ▬▬▬ ▬▬ ▬▬ ▬▬▬ ▬ ▬▬▬▬ ▬▬ ▬▬▬ ▬▬ ▬ ▬▬▬ ▬▬▬▬ ▬▬ ▬ ▬▬▬ ▬▬ ▬▬ ▬▬▬ ▬ ▬▬▬▬ ▬▬ ▬▬▬ ▬▬ ▬ ▬▬▬ ▬▬▬▬ ▬▬ ▬ ▬▬▬ ▬▬ ▬▬ ▬▬▬ ▬ ▬▬▬▬ ▬▬ ▬▬▬ ▬▬ ▬ ▬▬▬ ▬▬▬▬ ▬▬ ▬ ▬▬▬ ▬▬ ▬▬ ▬▬▬ ▬ ▬▬▬▬ ▬▬ ▬▬▬ ▬▬ ▬ ▬▬▬ ▬▬▬▬ ▬▬ ▬ ▬▬▬ ▬▬ ▬▬ ▬▬▬ ▬ ▬▬▬▬ ▬▬ ▬▬▬ ▬▬ ▬ ▬▬▬ ▬▬▬▬ ▬▬ ▬ ▬▬▬ ▬▬ ▬▬ ▬▬▬ ▬ ▬▬▬▬ ▬▬ ▬▬▬ ▬▬ ▬ ▬▬▬ ▬▬▬▬ ▬▬ ▬ ▬▬▬ ▬▬ ▬▬ ▬▬▬ ▬ ▬▬▬▬ ▬▬ ▬▬▬ ▬▬ ▬ ▬▬▬ ▬▬▬▬ ▬▬ ▬ ▬▬▬ ▬▬ ▬▬ ▬▬▬ ▬ ▬▬▬▬ ▬▬ ▬▬▬ ▬▬ ▬ ▬▬▬ ▬▬▬▬ ▬▬ ▬ ▬▬▬ ▬▬ ▬▬ ▬▬▬ ▬ ▬▬▬▬ ▬▬ ▬▬▬ ▬▬ ▬ ▬▬▬ ▬▬▬▬ ▬▬ ▬ ▬▬▬ ▬▬ ▬▬ ▬▬▬ ▬ ▬▬▬▬ ▬▬ ▬▬▬ ▬▬ ▬ ▬▬▬ ▬▬▬▬ ▬▬ ▬ ▬▬▬ ▬▬ ▬▬ ▬▬▬ ▬ ▬▬▬▬ ▬▬ ▬▬▬ ▬▬ ▬ ▬▬▬ ▬▬▬▬ ▬▬ ▬ ▬▬▬ ▬▬ ▬▬ ▬▬▬ ▬ ▬▬▬▬ ▬▬ ▬▬▬ ▬▬ ▬ ▬▬▬ ▬▬▬▬ ▬▬ ▬ ▬▬▬ ▬▬ ▬▬ ▬▬▬ ▬ ▬▬▬▬ ▬▬ ▬▬▬ ▬▬ ▬ ▬▬▬ ▬▬▬▬ ▬▬ ▬ ▬▬▬ ▬▬ ▬▬ ▬▬▬ ▬ ▬▬▬▬ ▬▬ ▬▬▬ ▬▬ ▬ ▬▬▬ ▬▬▬▬ ▬▬ ▬ ▬▬▬ ▬▬ ▬▬ ▬▬▬ ▬ ▬▬▬▬ ▬▬ ▬▬▬ ▬▬ ▬ ▬▬▬ ▬▬▬▬ ▬▬ ▬ ▬▬▬ ▬▬ ▬▬ ▬▬▬ ▬ ▬▬▬▬ ▬▬ ▬▬▬ ▬▬ ▬ ▬▬▬ ▬▬▬▬ ▬▬ ▬ ▬▬▬ ▬▬ ▬▬ ▬▬▬ ▬ ▬▬▬▬ ▬▬ ▬▬▬ ▬▬ ▬ ▬▬▬ ▬▬▬▬ ▬▬ ▬ ▬▬▬ ▬▬ ▬▬ ▬▬▬ ▬ ▬▬▬▬ ▬▬ ▬▬▬ ▬▬ ▬ ▬▬▬ ▬▬▬▬ ▬▬ ▬ ▬▬▬ ▬▬ ▬▬ ▬▬▬ ▬ ▬▬▬▬ ▬▬ ▬▬▬ ▬▬ ▬ ▬▬▬ ▬▬▬▬ ▬▬ ▬ ▬▬▬ ▬▬ ▬▬ ▬▬▬ ▬ ▬▬▬▬ ▬▬ ▬▬▬ ▬▬ ▬ ▬▬▬ ▬▬▬▬ ▬▬ ▬ ▬▬▬ ▬▬ ▬▬ ▬▬▬ ▬ ▬▬▬▬ ▬▬ ▬▬▬ ▬▬ ▬ ▬▬▬ ▬▬▬▬ ▬▬ ▬ ▬▬▬ ▬▬ ▬▬ ▬▬▬ ▬ ▬▬▬▬ ▬▬ ▬▬▬ ▬▬ ▬ ▬▬▬ ▬▬▬▬ ▬▬ ▬ ▬▬▬ ▬▬ ▬▬ ▬▬▬ ▬ ▬▬▬▬ ▬▬ ▬▬▬ ▬▬ ▬ ▬▬▬ ▬▬▬▬ ▬▬ ▬ ▬▬▬ ▬▬ ▬▬ ▬▬▬ ▬ ▬▬▬▬ ▬▬ ▬▬▬ ▬▬ ▬ ▬▬▬ ▬▬▬▬ ▬▬ ▬ ▬▬▬ ▬▬ ▬▬ ▬▬▬ ▬ ▬▬▬▬ ▬▬ ▬▬▬ ▬▬ ▬ ▬▬▬ ▬▬▬▬ ▬▬ ▬ ▬▬▬ ▬▬ ▬▬ ▬▬▬ ▬ ▬▬▬▬ ▬▬ ▬▬▬ ▬▬ ▬ ▬▬▬ ▬▬▬▬ ▬▬ ▬ ▬▬▬ ▬▬ ▬▬ ▬▬▬ ▬ ▬▬▬▬ ▬▬ ▬▬▬ ▬▬ ▬ ▬▬▬ ▬▬▬▬ ▬▬ ▬ ▬▬▬ ▬▬ ▬▬ ▬▬▬ ▬ ▬▬▬▬ ▬▬ ▬▬▬ ▬▬ ▬ ▬▬▬ ▬▬▬▬ ▬▬ ▬ ▬▬▬ ▬▬ ▬▬ ▬▬▬ ▬ ▬▬▬▬ ▬▬ ▬▬▬ ▬▬ ▬ ▬▬▬ ▬▬▬▬ ▬▬ ▬ ▬▬▬ ▬▬ ▬▬ ▬▬▬ ▬ ▬▬▬▬ ▬▬ ▬▬▬ ▬▬ ▬ ▬▬▬ ▬▬▬▬ ▬▬ ▬ ▬▬▬ ▬▬ ▬▬ ▬▬▬ ▬ ▬▬▬▬ ▬▬ ▬▬▬ ▬▬ ▬ ▬▬▬ ▬▬▬▬ ▬▬ ▬ ▬▬▬ ▬▬ ▬▬ ▬▬▬ ▬ ▬▬▬▬ ▬▬ ▬▬▬ ▬▬ ▬ ▬▬▬ ▬▬▬▬ ▬▬ ▬ ▬▬▬ ▬▬ ▬▬ ▬▬▬ ▬ ▬▬▬▬ ▬▬ ▬▬▬ ▬▬ ▬ ▬▬▬ ▬▬▬▬ ▬▬ ▬ ▬▬▬ ▬▬ ▬▬ ▬▬▬ ▬ ▬▬▬▬ ▬▬ ▬▬▬ ▬▬ ▬ ▬▬▬ ▬▬▬▬ ▬▬ ▬ ▬▬▬ ▬▬ ▬▬ ▬▬▬ ▬ ▬▬▬▬ ▬▬ ▬▬▬ ▬▬ ▬ ▬▬▬ ▬▬▬▬ ▬▬ ▬ ▬▬▬ ▬▬ ▬▬ ▬▬▬ ▬ ▬▬▬▬ ▬▬ ▬▬▬ ▬▬ ▬ ▬▬▬ ▬▬▬▬ ▬▬ ▬ ▬▬▬ ▬▬ ▬▬ ▬▬▬ ▬ ▬▬▬▬ ▬▬ ▬▬▬ ▬▬ ▬ ▬▬▬ ▬▬▬▬ ▬▬ ▬ ▬▬▬ ▬▬ ▬▬ ▬▬▬ ▬ ▬▬▬▬ ▬▬ ▬▬▬ ▬▬ ▬ ▬▬▬ ▬▬▬▬ ▬▬ ▬ ▬▬▬ ▬▬ ▬▬ ▬▬▬ ▬ ▬▬▬▬ ▬▬ ▬▬▬ ▬▬ ▬ ▬▬▬ ▬▬▬▬ ▬▬ ▬ ▬▬▬ ▬▬ ▬▬ ▬▬▬ ▬ ▬▬▬▬ ▬▬ ▬▬▬ ▬▬ ▬ ▬▬▬ ▬▬▬▬ ▬▬ ▬ ▬▬▬ ▬▬ ▬▬ ▬▬▬ ▬ ▬▬▬▬ ▬▬ ▬▬▬ ▬▬ ▬ ▬▬▬ ▬▬▬▬ ▬▬ ▬ ▬▬▬ ▬▬ ▬▬ ▬▬▬ ▬ ▬▬▬▬ ▬▬ ▬▬▬ ▬▬ ▬ ▬▬▬ ▬▬▬▬ ▬▬ ▬ ▬▬▬ ▬▬ ▬▬ ▬▬▬ ▬ ▬▬▬▬ ▬▬ ▬▬▬ ▬▬ ▬ ▬▬▬ ▬▬▬▬ ▬▬ ▬ ▬▬▬ ▬▬ ▬▬ ▬▬▬ ▬ ▬▬▬▬ ▬▬ ▬▬▬ ▬▬ ▬ ▬▬▬ ▬▬▬▬ ▬▬ ▬ ▬▬▬ ▬▬ ▬▬ ▬▬▬ ▬ ▬▬▬▬ ▬▬ ▬▬▬ ▬▬ ▬ ▬▬▬ ▬▬▬▬ ▬▬ ▬ ▬▬▬ ▬▬ ▬▬ ▬▬▬ ▬ ▬▬▬▬ ▬▬ ▬▬▬ ▬▬ ▬ ▬▬▬ ▬▬▬▬ ▬▬ ▬ ▬▬▬ ▬▬ ▬▬ ▬▬▬ ▬ ▬▬▬▬ ▬▬ ▬▬▬ ▬▬ ▬ ▬▬▬ ▬▬▬▬ ▬▬ ▬ ▬▬▬ ▬▬ ▬▬ ▬▬▬ ▬ ▬▬▬▬ ▬▬ ▬▬▬ ▬▬ ▬ ▬▬▬ ▬▬▬▬ ▬▬ ▬ ▬▬▬ ▬▬ ▬▬ ▬▬▬ ▬ ▬▬▬▬ ▬▬ ▬▬▬ ▬▬ ▬ ▬▬▬ ▬▬▬▬ ▬▬ ▬ ▬▬▬ ▬▬ ▬▬ ▬▬▬ ▬ ▬▬▬▬ ▬▬ ▬▬▬ ▬▬ ▬ ▬▬▬ ▬▬▬▬ ▬▬ ▬ ▬▬▬ ▬▬ ▬▬ ▬▬▬ ▬ ▬▬▬▬ ▬▬ ▬▬▬ ▬▬ ▬ ▬▬▬ ▬▬▬▬ ▬▬ ▬ ▬▬▬ ▬▬ ▬▬ ▬▬▬ ▬ ▬▬▬▬ ▬▬ ▬▬▬ ▬▬ ▬ ▬▬▬ ▬▬▬▬ ▬▬ ▬ ▬▬▬ ▬▬ ▬▬ ▬▬▬ ▬ ▬▬▬▬ ▬▬ ▬▬▬ ▬▬ ▬ ▬▬▬ ▬▬▬▬ ▬▬ ▬ ▬▬▬ ▬▬ ▬▬ ▬▬▬ ▬ ▬▬▬▬ ▬▬ ▬▬▬ ▬▬ ▬ ▬▬▬ ▬▬▬▬ ▬▬ ▬ ▬▬▬ ▬▬ ▬▬ ▬▬▬ ▬ ▬▬▬▬ ▬▬ ▬▬▬ ▬▬ ▬ ▬▬▬ ▬▬▬▬ ▬▬ ▬ ▬▬▬ ▬▬ ▬▬ ▬▬▬ ▬ ▬▬▬▬ ▬▬ ▬▬▬ ▬▬ ▬ ▬▬▬ ▬▬▬▬ ▬▬ ▬ ▬▬▬ ▬▬ ▬▬ ▬▬▬ ▬ ▬▬▬▬ ▬▬ ▬▬▬ ▬▬ ▬ ▬▬▬ ▬▬▬▬ ▬▬ ▬ ▬▬▬ ▬▬
▬▬ ▬▬▬ ▬ ▬▬▬▬ ▬▬ ▬▬▬ ▬▬ ▬ ▬▬▬ ▬▬▬▬ ▬▬ ▬ ▬▬▬ ▬▬ ▬▬ ▬▬▬ ▬ ▬▬▬▬ ▬▬ ▬▬▬ ▬▬ ▬ ▬▬▬ ▬▬▬▬ ▬▬ ▬ ▬▬▬ ▬▬ ▬▬ ▬▬▬ ▬ ▬▬▬▬ ▬▬ ▬▬▬ ▬▬ ▬ ▬▬▬ ▬▬▬▬ ▬▬ ▬ ▬▬▬ ▬▬ ▬▬ ▬▬▬ ▬ ▬▬▬▬ ▬▬ ▬▬▬ ▬▬ ▬ ▬▬▬ ▬▬▬▬ ▬▬ ▬ ▬▬▬ ▬▬ ▬▬ ▬▬▬ ▬ ▬▬▬▬ ▬▬ ▬▬▬ ▬▬ ▬ ▬▬▬ ▬▬▬▬ ▬▬ ▬ ▬▬▬ ▬▬ ▬▬ ▬▬▬ ▬ ▬▬▬▬ ▬▬ ▬▬▬ ▬▬ ▬ ▬▬▬ ▬▬▬▬ ▬▬ ▬ ▬▬▬ ▬▬ ▬▬ ▬▬▬ ▬ ▬▬▬▬ ▬▬ ▬▬▬ ▬▬ ▬ ▬▬▬ ▬▬▬▬ ▬▬ ▬ ▬▬▬ ▬▬ ▬▬ ▬▬▬ ▬ ▬▬▬▬ ▬▬ ▬▬▬ ▬▬ ▬ ▬▬▬ ▬▬▬▬ ▬▬ ▬ ▬▬▬ ▬▬ ▬▬ ▬▬▬ ▬ ▬▬▬▬ ▬▬ ▬▬▬ ▬▬ ▬ ▬▬▬ ▬▬▬▬ ▬▬ ▬ ▬▬▬ ▬▬ ▬▬ ▬▬▬ ▬ ▬▬▬▬ ▬▬ ▬▬▬ ▬▬ ▬ ▬▬▬ ▬▬▬▬ ▬▬ ▬ ▬▬▬ ▬▬ ▬▬ ▬▬▬ ▬ ▬▬▬▬ ▬▬ ▬▬▬ ▬▬ ▬ ▬▬▬ ▬▬▬▬ ▬▬ ▬ ▬▬▬ ▬▬ ▬▬ ▬▬▬ ▬ ▬▬▬▬ ▬▬ ▬▬▬ ▬▬ ▬ ▬▬▬ ▬▬▬▬ ▬▬ ▬ ▬▬▬ ▬▬ ▬▬ ▬▬▬ ▬ ▬▬▬▬ ▬▬ ▬▬▬ ▬▬ ▬ ▬▬▬ ▬▬▬▬ ▬▬ ▬ ▬▬▬ ▬▬ ▬▬ ▬▬▬ ▬ ▬▬▬▬ ▬▬ ▬▬▬ ▬▬ ▬ ▬▬▬ ▬▬▬▬ ▬▬ ▬ ▬▬▬ ▬▬ ▬▬ ▬▬▬ ▬ ▬▬▬▬ ▬▬ ▬▬▬ ▬▬ ▬ ▬▬▬ ▬▬▬▬ ▬▬ ▬ ▬▬▬ ▬▬ ▬▬ ▬▬▬ ▬ ▬▬▬▬ ▬▬ ▬▬▬ ▬▬ ▬ ▬▬▬ ▬▬▬▬ ▬▬ ▬ ▬▬▬ ▬▬ ▬▬ ▬▬▬ ▬ ▬▬▬▬ ▬▬ ▬▬▬ ▬▬ ▬ ▬▬▬ ▬▬▬▬ ▬▬ ▬ ▬▬▬ ▬▬ ▬▬ ▬▬▬ ▬ ▬▬▬▬ ▬▬ ▬▬▬ ▬▬ ▬ ▬▬▬ ▬▬▬▬ ▬▬ ▬ ▬▬▬ ▬▬ ▬▬ ▬▬▬ ▬ ▬▬▬▬ ▬▬ ▬▬▬ ▬▬ ▬ ▬▬▬ ▬▬▬▬ ▬▬ ▬ ▬▬▬ ▬▬ ▬▬ ▬▬▬ ▬ ▬▬▬▬ ▬▬ ▬▬▬ ▬▬ ▬ ▬▬▬ ▬▬▬▬ ▬▬ ▬ ▬▬▬ ▬▬ ▬▬ ▬▬▬ ▬ ▬▬▬▬ ▬▬ ▬▬▬ ▬▬ ▬ ▬▬▬ ▬▬▬▬ ▬▬ ▬ ▬▬▬ ▬▬ ▬▬ ▬▬▬ ▬ ▬▬▬▬ ▬▬ ▬▬▬ ▬▬ ▬ ▬▬▬ ▬▬▬▬ ▬▬ ▬ ▬▬▬ ▬▬ ▬▬ ▬▬▬ ▬ ▬▬▬▬ ▬▬ ▬▬▬ ▬▬ ▬ ▬▬▬ ▬▬▬▬ ▬▬ ▬ ▬▬▬ ▬▬ ▬▬ ▬▬▬ ▬ ▬▬▬▬ ▬▬ ▬▬▬ ▬▬ ▬ ▬▬▬ ▬▬▬▬ ▬▬ ▬ ▬▬▬ ▬▬ ▬▬ ▬▬▬ ▬ ▬▬▬▬ ▬▬ ▬▬▬ ▬▬ ▬ ▬▬▬ ▬▬▬▬ ▬▬ ▬ ▬▬▬ ▬▬ ▬▬ ▬▬▬ ▬ ▬▬▬▬ ▬▬ ▬▬▬ ▬▬ ▬ ▬▬▬ ▬▬▬▬ ▬▬ ▬ ▬▬▬ ▬▬ ▬▬ ▬▬▬ ▬ ▬▬▬▬ ▬▬ ▬▬▬ ▬▬ ▬ ▬▬▬ ▬▬▬▬ ▬▬ ▬ ▬▬▬ ▬▬ ▬▬ ▬▬▬ ▬ ▬▬▬▬ ▬▬ ▬▬▬ ▬▬ ▬ ▬▬▬ ▬▬▬▬ ▬▬ ▬ ▬▬▬ ▬▬ ▬▬ ▬▬▬ ▬ ▬▬▬▬ ▬▬ ▬▬▬ ▬▬ ▬ ▬▬▬ ▬▬▬▬ ▬▬ ▬ ▬▬▬ ▬▬ ▬▬ ▬▬▬ ▬ ▬▬▬▬ ▬▬ ▬▬▬ ▬▬ ▬ ▬▬▬ ▬▬▬▬ ▬▬ ▬ ▬▬▬ ▬▬ ▬▬ ▬▬▬ ▬ ▬▬▬▬ ▬▬ ▬▬▬ ▬▬ ▬ ▬▬▬ ▬▬▬▬ ▬▬ ▬ ▬▬▬ ▬▬ ▬▬ ▬▬▬ ▬ ▬▬▬▬ ▬▬ ▬▬▬ ▬▬ ▬ ▬▬▬ ▬▬▬▬ ▬▬ ▬ ▬▬▬ ▬▬ ▬▬ ▬▬▬ ▬ ▬▬▬▬ ▬▬ ▬▬▬ ▬▬ ▬ ▬▬▬ ▬▬▬▬ ▬▬ ▬ ▬▬▬ ▬▬ ▬▬ ▬▬▬ ▬ ▬▬▬▬ ▬▬ ▬▬▬ ▬▬ ▬ ▬▬▬ ▬▬▬▬ ▬▬ ▬ ▬▬▬ ▬▬ ▬▬ ▬▬▬ ▬ ▬▬▬▬ ▬▬ ▬▬▬ ▬▬ ▬ ▬▬▬ ▬▬▬▬ ▬▬ ▬ ▬▬▬ ▬▬ ▬▬ ▬▬▬ ▬ ▬▬▬▬ ▬▬ ▬▬▬ ▬▬ ▬ ▬▬▬ ▬▬▬▬ ▬▬ ▬ ▬▬▬ ▬▬ ▬▬ ▬▬▬ ▬ ▬▬▬▬ ▬▬ ▬▬▬ ▬▬ ▬ ▬▬▬ ▬▬▬▬ ▬▬ ▬ ▬▬▬ ▬▬ ▬▬ ▬▬▬ ▬ ▬▬▬▬ ▬▬ ▬▬▬ ▬▬ ▬ ▬▬▬ ▬▬▬▬ ▬▬ ▬ ▬▬▬ ▬▬ ▬▬ ▬▬▬ ▬ ▬▬▬▬ ▬▬ ▬▬▬ ▬▬ ▬ ▬▬▬ ▬▬▬▬ ▬▬ ▬ ▬▬▬ ▬▬ ▬▬ ▬▬▬ ▬ ▬▬▬▬ ▬▬ ▬▬▬ ▬▬ ▬ ▬▬▬ ▬▬▬▬ ▬▬ ▬ ▬▬▬ ▬▬ ▬▬ ▬▬▬ ▬ ▬▬▬▬ ▬▬ ▬▬▬ ▬▬ ▬ ▬▬▬ ▬▬▬▬ ▬▬ ▬ ▬▬▬ ▬▬ ▬▬ ▬▬▬ ▬ ▬▬▬▬ ▬▬ ▬▬▬ ▬▬ ▬ ▬▬▬ ▬▬▬▬ ▬▬ ▬ ▬▬▬ ▬▬ ▬▬ ▬▬▬ ▬ ▬▬▬▬ ▬▬ ▬▬▬ ▬▬ ▬ ▬▬▬ ▬▬▬▬ ▬▬ ▬ ▬▬▬ ▬▬ ▬▬ ▬▬▬ ▬ ▬▬▬▬ ▬▬ ▬▬▬ ▬▬ ▬ ▬▬▬ ▬▬▬▬ ▬▬ ▬ ▬▬▬ ▬▬ ▬▬ ▬▬▬ ▬ ▬▬▬▬ ▬▬ ▬▬▬ ▬▬ ▬ ▬▬▬ ▬▬▬▬ ▬▬ ▬ ▬▬▬ ▬▬ ▬▬ ▬▬▬ ▬ ▬▬▬▬ ▬▬ ▬▬▬ ▬▬ ▬ ▬▬▬ ▬▬▬▬ ▬▬ ▬ ▬▬▬ ▬▬ ▬▬ ▬▬▬ ▬ ▬▬▬▬ ▬▬ ▬▬▬ ▬▬ ▬ ▬▬▬ ▬▬▬▬ ▬▬ ▬ ▬▬▬ ▬▬ ▬▬ ▬▬▬ ▬ ▬▬▬▬ ▬▬ ▬▬▬ ▬▬ ▬ ▬▬▬ ▬▬▬▬ ▬▬ ▬ ▬▬▬ ▬▬ ▬▬ ▬▬▬ ▬ ▬▬▬▬ ▬▬ ▬▬▬ ▬▬ ▬ ▬▬▬ ▬▬▬▬ ▬▬ ▬ ▬▬▬ ▬▬ ▬▬ ▬▬▬ ▬ ▬▬▬▬ ▬▬ ▬▬▬ ▬▬ ▬ ▬▬▬ ▬▬▬▬ ▬▬ ▬ ▬▬▬ ▬▬ ▬▬ ▬▬▬ ▬ ▬▬▬▬ ▬▬ ▬▬▬ ▬▬ ▬ ▬▬▬ ▬▬▬▬ ▬▬ ▬ ▬▬▬ ▬▬ ▬▬ ▬▬▬ ▬ ▬▬▬▬ ▬▬ ▬▬▬ ▬▬ ▬ ▬▬▬ ▬▬▬▬ ▬▬ ▬ ▬▬▬ ▬▬ ▬▬ ▬▬▬ ▬ ▬▬▬▬ ▬▬ ▬▬▬ ▬▬ ▬ ▬▬▬ ▬▬▬▬ ▬▬ ▬ ▬▬▬ ▬▬ ▬▬ ▬▬▬ ▬ ▬▬▬▬ ▬▬ ▬▬▬ ▬▬ ▬ ▬▬▬ ▬▬▬▬ ▬▬ ▬ ▬▬▬ ▬▬ ▬▬ ▬▬▬ ▬ ▬▬▬▬ ▬▬ ▬▬▬ ▬▬ ▬ ▬▬▬ ▬▬▬▬ ▬▬ ▬ ▬▬▬ ▬▬ ▬▬ ▬▬▬ ▬ ▬▬▬▬ ▬▬ ▬▬▬ ▬▬ ▬ ▬▬▬ ▬▬▬▬ ▬▬ ▬ ▬▬▬ ▬▬ ▬▬ ▬▬▬ ▬ ▬▬▬▬ ▬▬ ▬▬▬ ▬▬ ▬ ▬▬▬ ▬▬▬▬ ▬▬ ▬ ▬▬▬ ▬▬ ▬▬ ▬▬▬ ▬ ▬▬▬▬ ▬▬ ▬▬▬ ▬▬ ▬ ▬▬▬ ▬▬▬▬ ▬▬ ▬ ▬▬▬ ▬▬ ▬▬ ▬▬▬ ▬ ▬▬▬▬ ▬▬ ▬▬▬ ▬▬ ▬ ▬▬▬ ▬▬▬▬ ▬▬ ▬ ▬▬▬ ▬▬ ▬▬ ▬▬▬ ▬ ▬▬▬▬ ▬▬ ▬▬▬ ▬▬ ▬ ▬▬▬ ▬▬▬▬ ▬▬ ▬ ▬▬▬ ▬▬
▬▬ ▬▬▬ ▬ ▬▬▬▬ ▬▬ ▬▬▬ ▬▬ ▬ ▬▬▬ ▬▬▬▬ ▬▬ ▬ ▬▬▬ ▬▬ ▬▬ ▬▬▬ ▬ ▬▬▬▬ ▬▬ ▬▬▬ ▬▬ ▬ ▬▬▬ ▬▬▬▬ ▬▬ ▬ ▬▬▬ ▬▬ ▬▬ ▬▬▬ ▬ ▬▬▬▬ ▬▬ ▬▬▬ ▬▬ ▬ ▬▬▬ ▬▬▬▬ ▬▬ ▬ ▬▬▬ ▬▬ ▬▬ ▬▬▬ ▬ ▬▬▬▬ ▬▬ ▬▬▬ ▬▬ ▬ ▬▬▬ ▬▬▬▬ ▬▬ ▬ ▬▬▬ ▬▬ ▬▬ ▬▬▬ ▬ ▬▬▬▬ ▬▬ ▬▬▬ ▬▬ ▬ ▬▬▬ ▬▬▬▬ ▬▬ ▬ ▬▬▬ ▬▬ ▬▬ ▬▬▬ ▬ ▬▬▬▬ ▬▬ ▬▬▬ ▬▬ ▬ ▬▬▬ ▬▬▬▬ ▬▬ ▬ ▬▬▬ ▬▬ ▬▬ ▬▬▬ ▬ ▬▬▬▬ ▬▬ ▬▬▬ ▬▬ ▬ ▬▬▬ ▬▬▬▬ ▬▬ ▬ ▬▬▬ ▬▬ ▬▬ ▬▬▬ ▬ ▬▬▬▬ ▬▬ ▬▬▬ ▬▬ ▬ ▬▬▬ ▬▬▬▬ ▬▬ ▬ ▬▬▬ ▬▬ ▬▬ ▬▬▬ ▬ ▬▬▬▬ ▬▬ ▬▬▬ ▬▬ ▬ ▬▬▬ ▬▬▬▬ ▬▬ ▬ ▬▬▬ ▬▬ ▬▬ ▬▬▬ ▬ ▬▬▬▬ ▬▬ ▬▬▬ ▬▬ ▬ ▬▬▬ ▬▬▬▬ ▬▬ ▬ ▬▬▬ ▬▬ ▬▬ ▬▬▬ ▬ ▬▬▬▬ ▬▬ ▬▬▬ ▬▬ ▬ ▬▬▬ ▬▬▬▬ ▬▬ ▬ ▬▬▬ ▬▬ ▬▬ ▬▬▬ ▬ ▬▬▬▬ ▬▬ ▬▬▬ ▬▬ ▬ ▬▬▬ ▬▬▬▬ ▬▬ ▬ ▬▬▬ ▬▬ ▬▬ ▬▬▬ ▬ ▬▬▬▬ ▬▬ ▬▬▬ ▬▬ ▬ ▬▬▬ ▬▬▬▬ ▬▬ ▬ ▬▬▬ ▬▬ ▬▬ ▬▬▬ ▬ ▬▬▬▬ ▬▬ ▬▬▬ ▬▬ ▬ ▬▬▬ ▬▬▬▬ ▬▬ ▬ ▬▬▬ ▬▬ ▬▬ ▬▬▬ ▬ ▬▬▬▬ ▬▬ ▬▬▬ ▬▬ ▬ ▬▬▬ ▬▬▬▬ ▬▬ ▬ ▬▬▬ ▬▬ ▬▬ ▬▬▬ ▬ ▬▬▬▬ ▬▬ ▬▬▬ ▬▬ ▬ ▬▬▬ ▬▬▬▬ ▬▬ ▬ ▬▬▬ ▬▬ ▬▬ ▬▬▬ ▬ ▬▬▬▬ ▬▬ ▬▬▬ ▬▬ ▬ ▬▬▬ ▬▬▬▬ ▬▬ ▬ ▬▬▬ ▬▬ ▬▬ ▬▬▬ ▬ ▬▬▬▬ ▬▬ ▬▬▬ ▬▬ ▬ ▬▬▬ ▬▬▬▬ ▬▬ ▬ ▬▬▬ ▬▬ ▬▬ ▬▬▬ ▬ ▬▬▬▬ ▬▬ ▬▬▬ ▬▬ ▬ ▬▬▬ ▬▬▬▬ ▬▬ ▬ ▬▬▬ ▬▬ ▬▬ ▬▬▬ ▬ ▬▬▬▬ ▬▬ ▬▬▬ ▬▬ ▬ ▬▬▬ ▬▬▬▬ ▬▬ ▬ ▬▬▬ ▬▬ ▬▬ ▬▬▬ ▬ ▬▬▬▬ ▬▬ ▬▬▬ ▬▬ ▬ ▬▬▬ ▬▬▬▬ ▬▬ ▬ ▬▬▬ ▬▬ ▬▬ ▬▬▬ ▬ ▬▬▬▬ ▬▬ ▬▬▬ ▬▬ ▬ ▬▬▬ ▬▬▬▬ ▬▬ ▬ ▬▬▬ ▬▬ ▬▬ ▬▬▬ ▬ ▬▬▬▬ ▬▬ ▬▬▬ ▬▬ ▬ ▬▬▬ ▬▬▬▬ ▬▬ ▬ ▬▬▬ ▬▬ ▬▬ ▬▬▬ ▬ ▬▬▬▬ ▬▬ ▬▬▬ ▬▬ ▬ ▬▬▬ ▬▬▬▬ ▬▬ ▬ ▬▬▬ ▬▬ ▬▬ ▬▬▬ ▬ ▬▬▬▬ ▬▬ ▬▬▬ ▬▬ ▬ ▬▬▬ ▬▬▬▬ ▬▬ ▬ ▬▬▬ ▬▬ ▬▬ ▬▬▬ ▬ ▬▬▬▬ ▬▬ ▬▬▬ ▬▬ ▬ ▬▬▬ ▬▬▬▬ ▬▬ ▬ ▬▬▬ ▬▬ ▬▬ ▬▬▬ ▬ ▬▬▬▬ ▬▬ ▬▬▬ ▬▬ ▬ ▬▬▬ ▬▬▬▬ ▬▬ ▬ ▬▬▬ ▬▬ ▬▬ ▬▬▬ ▬ ▬▬▬▬ ▬▬ ▬▬▬ ▬▬ ▬ ▬▬▬ ▬▬▬▬ ▬▬ ▬ ▬▬▬ ▬▬ ▬▬ ▬▬▬ ▬ ▬▬▬▬ ▬▬ ▬▬▬ ▬▬ ▬ ▬▬▬ ▬▬▬▬ ▬▬ ▬ ▬▬▬ ▬▬ ▬▬ ▬▬▬ ▬ ▬▬▬▬ ▬▬ ▬▬▬ ▬▬ ▬ ▬▬▬ ▬▬▬▬ ▬▬ ▬ ▬▬▬ ▬▬ ▬▬ ▬▬▬ ▬ ▬▬▬▬ ▬▬ ▬▬▬ ▬▬ ▬ ▬▬▬ ▬▬▬▬ ▬▬ ▬ ▬▬▬ ▬▬ ▬▬ ▬▬▬ ▬ ▬▬▬▬ ▬▬ ▬▬▬ ▬▬ ▬ ▬▬▬ ▬▬▬▬ ▬▬ ▬ ▬▬▬ ▬▬ ▬▬ ▬▬▬ ▬ ▬▬▬▬ ▬▬ ▬▬▬ ▬▬ ▬ ▬▬▬ ▬▬▬▬ ▬▬ ▬ ▬▬▬ ▬▬ ▬▬ ▬▬▬ ▬ ▬▬▬▬ ▬▬ ▬▬▬ ▬▬ ▬ ▬▬▬ ▬▬▬▬ ▬▬ ▬ ▬▬▬ ▬▬ ▬▬ ▬▬▬ ▬ ▬▬▬▬ ▬▬ ▬▬▬ ▬▬ ▬ ▬▬▬ ▬▬▬▬ ▬▬ ▬ ▬▬▬ ▬▬ ▬▬ ▬▬▬ ▬ ▬▬▬▬ ▬▬ ▬▬▬ ▬▬ ▬ ▬▬▬ ▬▬▬▬ ▬▬ ▬ ▬▬▬ ▬▬ ▬▬ ▬▬▬ ▬ ▬▬▬▬ ▬▬ ▬▬▬ ▬▬ ▬ ▬▬▬ ▬▬▬▬ ▬▬ ▬ ▬▬▬ ▬▬ ▬▬ ▬▬▬ ▬ ▬▬▬▬ ▬▬ ▬▬▬ ▬▬ ▬ ▬▬▬ ▬▬▬▬ ▬▬ ▬ ▬▬▬ ▬▬ ▬▬ ▬▬▬ ▬ ▬▬▬▬ ▬▬ ▬▬▬ ▬▬ ▬ ▬▬▬ ▬▬▬▬ ▬▬ ▬ ▬▬▬ ▬▬ ▬▬ ▬▬▬ ▬ ▬▬▬▬ ▬▬ ▬▬▬ ▬▬ ▬ ▬▬▬ ▬▬▬▬ ▬▬ ▬ ▬▬▬ ▬▬ ▬▬ ▬▬▬ ▬ ▬▬▬▬ ▬▬ ▬▬▬ ▬▬ ▬ ▬▬▬ ▬▬▬▬ ▬▬ ▬ ▬▬▬ ▬▬ ▬▬ ▬▬▬ ▬ ▬▬▬▬ ▬▬ ▬▬▬ ▬▬ ▬ ▬▬▬ ▬▬▬▬ ▬▬ ▬ ▬▬▬ ▬▬ ▬▬ ▬▬▬ ▬ ▬▬▬▬ ▬▬ ▬▬▬ ▬▬ ▬ ▬▬▬ ▬▬▬▬ ▬▬ ▬ ▬▬▬ ▬▬ ▬▬ ▬▬▬ ▬ ▬▬▬▬ ▬▬ ▬▬▬ ▬▬ ▬ ▬▬▬ ▬▬▬▬ ▬▬ ▬ ▬▬▬ ▬▬ ▬▬ ▬▬▬ ▬ ▬▬▬▬ ▬▬ ▬▬▬ ▬▬ ▬ ▬▬▬ ▬▬▬▬ ▬▬ ▬ ▬▬▬ ▬▬ ▬▬ ▬▬▬ ▬ ▬▬▬▬ ▬▬ ▬▬▬ ▬▬ ▬ ▬▬▬ ▬▬▬▬ ▬▬ ▬ ▬▬▬ ▬▬ ▬▬ ▬▬▬ ▬ ▬▬▬▬ ▬▬ ▬▬▬ ▬▬ ▬ ▬▬▬ ▬▬▬▬ ▬▬ ▬ ▬▬▬ ▬▬ ▬▬ ▬▬▬ ▬ ▬▬▬▬ ▬▬ ▬▬▬ ▬▬ ▬ ▬▬▬ ▬▬▬▬ ▬▬ ▬ ▬▬▬ ▬▬ ▬▬ ▬▬▬ ▬ ▬▬▬▬ ▬▬ ▬▬▬ ▬▬ ▬ ▬▬▬ ▬▬▬▬ ▬▬ ▬ ▬▬▬ ▬▬ ▬▬ ▬▬▬ ▬ ▬▬▬▬ ▬▬ ▬▬▬ ▬▬ ▬ ▬▬▬ ▬▬▬▬ ▬▬ ▬ ▬▬▬ ▬▬ ▬▬ ▬▬▬ ▬ ▬▬▬▬ ▬▬ ▬▬▬ ▬▬ ▬ ▬▬▬ ▬▬▬▬ ▬▬ ▬ ▬▬▬ ▬▬ ▬▬ ▬▬▬ ▬ ▬▬▬▬ ▬▬ ▬▬▬ ▬▬ ▬ ▬▬▬ ▬▬▬▬ ▬▬ ▬ ▬▬▬ ▬▬ ▬▬ ▬▬▬ ▬ ▬▬▬▬ ▬▬ ▬▬▬ ▬▬ ▬ ▬▬▬ ▬▬▬▬ ▬▬ ▬ ▬▬▬ ▬▬ ▬▬ ▬▬▬ ▬ ▬▬▬▬ ▬▬ ▬▬▬ ▬▬ ▬ ▬▬▬ ▬▬▬▬ ▬▬ ▬ ▬▬▬ ▬▬ ▬▬ ▬▬▬ ▬ ▬▬▬▬ ▬▬ ▬▬▬ ▬▬ ▬ ▬▬▬ ▬▬▬▬ ▬▬ ▬ ▬▬▬ ▬▬ ▬▬ ▬▬▬ ▬ ▬▬▬▬ ▬▬ ▬▬▬ ▬▬ ▬ ▬▬▬ ▬▬▬▬ ▬▬ ▬ ▬▬▬ ▬▬ ▬▬ ▬▬▬ ▬ ▬▬▬▬ ▬▬ ▬▬▬ ▬▬ ▬ ▬▬▬ ▬▬▬▬ ▬▬ ▬ ▬▬▬ ▬▬ ▬▬ ▬▬▬ ▬ ▬▬▬▬ ▬▬ ▬▬▬ ▬▬ ▬ ▬▬▬ ▬▬▬▬ ▬▬ ▬ ▬▬▬ ▬▬ ▬▬ ▬▬▬ ▬ ▬▬▬▬ ▬▬ ▬▬▬ ▬▬ ▬ ▬▬▬ ▬▬▬▬ ▬▬ ▬ ▬▬▬ ▬▬ ▬▬ ▬▬▬ ▬ ▬▬▬▬ ▬▬ ▬▬▬ ▬▬ ▬ ▬▬▬ ▬▬▬▬ ▬▬ ▬ ▬▬▬ ▬▬
पुंछ के 4 स्कूलों में सुविधाएं प्रदान कीं
▬▬ ▬▬▬ ▬ ▬▬▬▬ ▬▬ ▬▬▬ ▬▬ ▬ ▬▬▬ ▬▬▬▬ ▬▬ ▬ ▬▬▬ ▬▬ ▬▬ ▬▬▬ ▬ ▬▬▬▬ ▬▬ ▬▬▬ ▬▬ ▬ ▬▬▬ ▬▬▬▬ ▬▬ ▬ ▬▬▬ ▬▬ ▬▬ ▬▬▬ ▬ ▬▬▬▬ ▬▬ ▬▬▬ ▬▬ ▬ ▬▬▬ ▬▬▬▬ ▬▬ ▬ ▬▬▬ ▬▬ ▬▬ ▬▬▬ ▬ ▬▬▬▬ ▬▬ ▬▬▬ ▬▬ ▬ ▬▬▬ ▬▬▬▬ ▬▬ ▬ ▬▬▬ ▬▬ ▬▬ ▬▬▬ ▬ ▬▬▬▬ ▬▬ ▬▬▬ ▬▬ ▬ ▬▬▬ ▬▬▬▬ ▬▬ ▬ ▬▬▬ ▬▬ ▬▬ ▬▬▬ ▬ ▬▬▬▬ ▬▬ ▬▬▬ ▬▬ ▬ ▬▬▬ ▬▬▬▬ ▬▬ ▬ ▬▬▬ ▬▬ ▬▬ ▬▬▬ ▬ ▬▬▬▬ ▬▬ ▬▬▬ ▬▬ ▬ ▬▬▬ ▬▬▬▬ ▬▬ ▬ ▬▬▬ ▬▬ ▬▬ ▬▬▬ ▬ ▬▬▬▬ ▬▬ ▬▬▬ ▬▬ ▬ ▬▬▬ ▬▬▬▬ ▬▬ ▬ ▬▬▬ ▬▬ ▬▬ ▬▬▬ ▬ ▬▬▬▬ ▬▬ ▬▬▬ ▬▬ ▬ ▬▬▬ ▬▬▬▬ ▬▬ ▬ ▬▬▬ ▬▬ ▬▬ ▬▬▬ ▬ ▬▬▬▬ ▬▬ ▬▬▬ ▬▬ ▬ ▬▬▬ ▬▬▬▬ ▬▬ ▬ ▬▬▬ ▬▬ ▬▬ ▬▬▬ ▬ ▬▬▬▬ ▬▬ ▬▬▬ ▬▬ ▬ ▬▬▬ ▬▬▬▬ ▬▬ ▬ ▬▬▬ ▬▬ ▬▬ ▬▬▬ ▬ ▬▬▬▬ ▬▬ ▬▬▬ ▬▬ ▬ ▬▬▬ ▬▬▬▬ ▬▬ ▬ ▬▬▬ ▬▬ ▬▬ ▬▬▬ ▬ ▬▬▬▬ ▬▬ ▬▬▬ ▬▬ ▬ ▬▬▬ ▬▬▬▬ ▬▬ ▬ ▬▬▬ ▬▬ ▬▬ ▬▬▬ ▬ ▬▬▬▬ ▬▬ ▬▬▬ ▬▬ ▬ ▬▬▬ ▬▬▬▬ ▬▬ ▬ ▬▬▬ ▬▬ ▬▬ ▬▬▬ ▬ ▬▬▬▬ ▬▬ ▬▬▬ ▬▬ ▬ ▬▬▬ ▬▬▬▬ ▬▬ ▬ ▬▬▬ ▬▬ ▬▬ ▬▬▬ ▬ ▬▬▬▬ ▬▬ ▬▬▬ ▬▬ ▬ ▬▬▬ ▬▬▬▬ ▬▬ ▬ ▬▬▬ ▬▬ ▬▬ ▬▬▬ ▬ ▬▬▬▬ ▬▬ ▬▬▬ ▬▬ ▬ ▬▬▬ ▬▬▬▬ ▬▬ ▬ ▬▬▬ ▬▬ ▬▬ ▬▬▬ ▬ ▬▬▬▬ ▬▬ ▬▬▬ ▬▬ ▬ ▬▬▬ ▬▬▬▬ ▬▬ ▬ ▬▬▬ ▬▬ ▬▬ ▬▬▬ ▬ ▬▬▬▬ ▬▬ ▬▬▬ ▬▬ ▬ ▬▬▬ ▬▬▬▬ ▬▬ ▬ ▬▬▬ ▬▬ ▬▬ ▬▬▬ ▬ ▬▬▬▬ ▬▬ ▬▬▬ ▬▬ ▬ ▬▬▬ ▬▬▬▬ ▬▬ ▬ ▬▬▬ ▬▬ ▬▬ ▬▬▬ ▬ ▬▬▬▬ ▬▬ ▬▬▬ ▬▬ ▬ ▬▬▬ ▬▬▬▬ ▬▬ ▬ ▬▬▬ ▬▬ ▬▬ ▬▬▬ ▬ ▬▬▬▬ ▬▬ ▬▬▬ ▬▬ ▬ ▬▬▬ ▬▬▬▬ ▬▬ ▬ ▬▬▬ ▬▬ ▬▬ ▬▬▬ ▬ ▬▬▬▬ ▬▬ ▬▬▬ ▬▬ ▬ ▬▬▬ ▬▬▬▬ ▬▬ ▬ ▬▬▬ ▬▬ ▬▬ ▬▬▬ ▬ ▬▬▬▬ ▬▬ ▬▬▬ ▬▬ ▬ ▬▬▬ ▬▬▬▬ ▬▬ ▬ ▬▬▬ ▬▬ ▬▬ ▬▬▬ ▬ ▬▬▬▬ ▬▬ ▬▬▬ ▬▬ ▬ ▬▬▬ ▬▬▬▬ ▬▬ ▬ ▬▬▬ ▬▬ ▬▬ ▬▬▬ ▬ ▬▬▬▬ ▬▬ ▬▬▬ ▬▬ ▬ ▬▬▬ ▬▬▬▬ ▬▬ ▬ ▬▬▬ ▬▬ ▬▬ ▬▬▬ ▬ ▬▬▬▬ ▬▬ ▬▬▬ ▬▬ ▬ ▬▬▬ ▬▬▬▬ ▬▬ ▬ ▬▬▬ ▬▬ ▬▬ ▬▬▬ ▬ ▬▬▬▬ ▬▬ ▬▬▬ ▬▬ ▬ ▬▬▬ ▬▬▬▬ ▬▬ ▬ ▬▬▬ ▬▬ ▬▬ ▬▬▬ ▬ ▬▬▬▬ ▬▬ ▬▬▬ ▬▬ ▬ ▬▬▬ ▬▬▬▬ ▬▬ ▬ ▬▬▬ ▬▬ ▬▬ ▬▬▬ ▬ ▬▬▬▬ ▬▬ ▬▬▬ ▬▬ ▬ ▬▬▬ ▬▬▬▬ ▬▬ ▬ ▬▬▬ ▬▬ ▬▬ ▬▬▬ ▬ ▬▬▬▬ ▬▬ ▬▬▬ ▬▬ ▬ ▬▬▬ ▬▬▬▬ ▬▬ ▬ ▬▬▬ ▬▬ ▬▬ ▬▬▬ ▬ ▬▬▬▬ ▬▬ ▬▬▬ ▬▬ ▬ ▬▬▬ ▬▬▬▬ ▬▬ ▬ ▬▬▬ ▬▬ ▬▬ ▬▬▬ ▬ ▬▬▬▬ ▬▬ ▬▬▬ ▬▬ ▬ ▬▬▬ ▬▬▬▬ ▬▬ ▬ ▬▬▬ ▬▬ ▬▬ ▬▬▬ ▬ ▬▬▬▬ ▬▬ ▬▬▬ ▬▬ ▬ ▬▬▬ ▬▬▬▬ ▬▬ ▬ ▬▬▬ ▬▬ ▬▬ ▬▬▬ ▬ ▬▬▬▬ ▬▬ ▬▬▬ ▬▬ ▬ ▬▬▬ ▬▬▬▬ ▬▬ ▬ ▬▬▬ ▬▬ ▬▬ ▬▬▬ ▬ ▬▬▬▬ ▬▬ ▬▬▬ ▬▬ ▬ ▬▬▬ ▬▬▬▬ ▬▬ ▬ ▬▬▬ ▬▬ ▬▬ ▬▬▬ ▬ ▬▬▬▬ ▬▬ ▬▬▬ ▬▬ ▬ ▬▬▬ ▬▬▬▬ ▬▬ ▬ ▬▬▬ ▬▬ ▬▬ ▬▬▬ ▬ ▬▬▬▬ ▬▬ ▬▬▬ ▬▬ ▬ ▬▬▬ ▬▬▬▬ ▬▬ ▬ ▬▬▬ ▬▬ ▬▬ ▬▬▬ ▬ ▬▬▬▬ ▬▬ ▬▬▬ ▬▬ ▬ ▬▬▬ ▬▬▬▬ ▬▬ ▬ ▬▬▬ ▬▬ ▬▬ ▬▬▬ ▬ ▬▬▬▬ ▬▬ ▬▬▬ ▬▬ ▬ ▬▬▬ ▬▬▬▬ ▬▬ ▬ ▬▬▬ ▬▬ ▬▬ ▬▬▬ ▬ ▬▬▬▬ ▬▬ ▬▬▬ ▬▬ ▬ ▬▬▬ ▬▬▬▬ ▬▬ ▬ ▬▬▬ ▬▬ ▬▬ ▬▬▬ ▬ ▬▬▬▬ ▬▬ ▬▬▬ ▬▬ ▬ ▬▬▬ ▬▬▬▬ ▬▬ ▬ ▬▬▬ ▬▬ ▬▬ ▬▬▬ ▬ ▬▬▬▬ ▬▬ ▬▬▬ ▬▬ ▬ ▬▬▬ ▬▬▬▬ ▬▬ ▬ ▬▬▬ ▬▬ ▬▬ ▬▬▬ ▬ ▬▬▬▬ ▬▬ ▬▬▬ ▬▬ ▬ ▬▬▬ ▬▬▬▬ ▬▬ ▬ ▬▬▬ ▬▬ ▬▬ ▬▬▬ ▬ ▬▬▬▬ ▬▬ ▬▬▬ ▬▬ ▬ ▬▬▬ ▬▬▬▬ ▬▬ ▬ ▬▬▬ ▬▬ ▬▬ ▬▬▬ ▬ ▬▬▬▬ ▬▬ ▬▬▬ ▬▬ ▬ ▬▬▬ ▬▬▬▬ ▬▬ ▬ ▬▬▬ ▬▬ ▬▬ ▬▬▬ ▬ ▬▬▬▬ ▬▬ ▬▬▬ ▬▬ ▬ ▬▬▬ ▬▬▬▬ ▬▬ ▬ ▬▬▬ ▬▬ ▬▬ ▬▬▬ ▬ ▬▬▬▬ ▬▬ ▬▬▬ ▬▬ ▬ ▬▬▬ ▬▬▬▬ ▬▬ ▬ ▬▬▬ ▬▬ ▬▬ ▬▬▬ ▬ ▬▬▬▬ ▬▬ ▬▬▬ ▬▬ ▬ ▬▬▬ ▬▬▬▬ ▬▬ ▬ ▬▬▬ ▬▬ ▬▬ ▬▬▬ ▬ ▬▬▬▬ ▬▬ ▬▬▬ ▬▬ ▬ ▬▬▬ ▬▬▬▬ ▬▬ ▬ ▬▬▬ ▬▬ ▬▬ ▬▬▬ ▬ ▬▬▬▬ ▬▬ ▬▬▬ ▬▬ ▬ ▬▬▬ ▬▬▬▬ ▬▬ ▬ ▬▬▬ ▬▬ ▬▬ ▬▬▬ ▬ ▬▬▬▬ ▬▬ ▬▬▬ ▬▬ ▬ ▬▬▬ ▬▬▬▬ ▬▬ ▬ ▬▬▬ ▬▬ ▬▬ ▬▬▬ ▬ ▬▬▬▬ ▬▬ ▬▬▬ ▬▬ ▬ ▬▬▬ ▬▬▬▬ ▬▬ ▬ ▬▬▬ ▬▬ ▬▬ ▬▬▬ ▬ ▬▬▬▬ ▬▬ ▬▬▬ ▬▬ ▬ ▬▬▬ ▬▬▬▬ ▬▬ ▬ ▬▬▬ ▬▬ ▬▬ ▬▬▬ ▬ ▬▬▬▬ ▬▬ ▬▬▬ ▬▬ ▬ ▬▬▬ ▬▬▬▬ ▬▬ ▬ ▬▬▬ ▬▬ ▬▬ ▬▬▬ ▬ ▬▬▬▬ ▬▬ ▬▬▬ ▬▬ ▬ ▬▬▬ ▬▬▬▬ ▬▬ ▬ ▬▬▬ ▬▬ ▬▬ ▬▬▬ ▬ ▬▬▬▬ ▬▬ ▬▬▬ ▬▬ ▬ ▬▬▬ ▬▬▬▬ ▬▬ ▬ ▬▬▬ ▬▬ ▬▬ ▬▬▬ ▬ ▬▬▬▬ ▬▬ ▬▬▬ ▬▬ ▬ ▬▬▬ ▬▬▬▬ ▬▬ ▬ ▬▬▬ ▬▬ ▬▬ ▬▬▬ ▬ ▬▬▬▬ ▬▬ ▬▬▬ ▬▬ ▬ ▬▬▬ ▬▬▬▬ ▬▬ ▬ ▬▬▬ ▬▬ ▬▬ ▬▬▬ ▬ ▬▬▬▬ ▬▬ ▬▬▬ ▬▬ ▬ ▬▬▬ ▬▬▬▬ ▬▬ ▬ ▬▬▬ ▬▬
▬▬ ▬▬▬ ▬ ▬▬▬▬ ▬▬ ▬▬▬ ▬▬ ▬ ▬▬▬ ▬▬▬▬ ▬▬ ▬ ▬▬▬ ▬▬ ▬▬ ▬▬▬ ▬ ▬▬▬▬ ▬▬ ▬▬▬ ▬▬ ▬ ▬▬▬ ▬▬▬▬ ▬▬ ▬ ▬▬▬ ▬▬ ▬▬ ▬▬▬ ▬ ▬▬▬▬ ▬▬ ▬▬▬ ▬▬ ▬ ▬▬▬ ▬▬▬▬ ▬▬ ▬ ▬▬▬ ▬▬ ▬▬ ▬▬▬ ▬ ▬▬▬▬ ▬▬ ▬▬▬ ▬▬ ▬ ▬▬▬ ▬▬▬▬ ▬▬ ▬ ▬▬▬ ▬▬ ▬▬ ▬▬▬ ▬ ▬▬▬▬ ▬▬ ▬▬▬ ▬▬ ▬ ▬▬▬ ▬▬▬▬ ▬▬ ▬ ▬▬▬ ▬▬ ▬▬ ▬▬▬ ▬ ▬▬▬▬ ▬▬ ▬▬▬ ▬▬ ▬ ▬▬▬ ▬▬▬▬ ▬▬ ▬ ▬▬▬ ▬▬ ▬▬ ▬▬▬ ▬ ▬▬▬▬ ▬▬ ▬▬▬ ▬▬ ▬ ▬▬▬ ▬▬▬▬ ▬▬ ▬ ▬▬▬ ▬▬ ▬▬ ▬▬▬ ▬ ▬▬▬▬ ▬▬ ▬▬▬ ▬▬ ▬ ▬▬▬ ▬▬▬▬ ▬▬ ▬ ▬▬▬ ▬▬ ▬▬ ▬▬▬ ▬ ▬▬▬▬ ▬▬ ▬▬▬ ▬▬ ▬ ▬▬▬ ▬▬▬▬ ▬▬ ▬ ▬▬▬ ▬▬ ▬▬ ▬▬▬ ▬ ▬▬▬▬ ▬▬ ▬▬▬ ▬▬ ▬ ▬▬▬ ▬▬▬▬ ▬▬ ▬ ▬▬▬ ▬▬ ▬▬ ▬▬▬ ▬ ▬▬▬▬ ▬▬ ▬▬▬ ▬▬ ▬ ▬▬▬ ▬▬▬▬ ▬▬ ▬ ▬▬▬ ▬▬ ▬▬ ▬▬▬ ▬ ▬▬▬▬ ▬▬ ▬▬▬ ▬▬ ▬ ▬▬▬ ▬▬▬▬ ▬▬ ▬ ▬▬▬ ▬▬ ▬▬ ▬▬▬ ▬ ▬▬▬▬ ▬▬ ▬▬▬ ▬▬ ▬ ▬▬▬ ▬▬▬▬ ▬▬ ▬ ▬▬▬ ▬▬ ▬▬ ▬▬▬ ▬ ▬▬▬▬ ▬▬ ▬▬▬ ▬▬ ▬ ▬▬▬ ▬▬▬▬ ▬▬ ▬ ▬▬▬ ▬▬ ▬▬ ▬▬▬ ▬ ▬▬▬▬ ▬▬ ▬▬▬ ▬▬ ▬ ▬▬▬ ▬▬▬▬ ▬▬ ▬ ▬▬▬ ▬▬ ▬▬ ▬▬▬ ▬ ▬▬▬▬ ▬▬ ▬▬▬ ▬▬ ▬ ▬▬▬ ▬▬▬▬ ▬▬ ▬ ▬▬▬ ▬▬ ▬▬ ▬▬▬ ▬ ▬▬▬▬ ▬▬ ▬▬▬ ▬▬ ▬ ▬▬▬ ▬▬▬▬ ▬▬ ▬ ▬▬▬ ▬▬ ▬▬ ▬▬▬ ▬ ▬▬▬▬ ▬▬ ▬▬▬ ▬▬ ▬ ▬▬▬ ▬▬▬▬ ▬▬ ▬ ▬▬▬ ▬▬ ▬▬ ▬▬▬ ▬ ▬▬▬▬ ▬▬ ▬▬▬ ▬▬ ▬ ▬▬▬ ▬▬▬▬ ▬▬ ▬ ▬▬▬ ▬▬ ▬▬ ▬▬▬ ▬ ▬▬▬▬ ▬▬ ▬▬▬ ▬▬ ▬ ▬▬▬ ▬▬▬▬ ▬▬ ▬ ▬▬▬ ▬▬ ▬▬ ▬▬▬ ▬ ▬▬▬▬ ▬▬ ▬▬▬ ▬▬ ▬ ▬▬▬ ▬▬▬▬ ▬▬ ▬ ▬▬▬ ▬▬ ▬▬ ▬▬▬ ▬ ▬▬▬▬ ▬▬ ▬▬▬ ▬▬ ▬ ▬▬▬ ▬▬▬▬ ▬▬ ▬ ▬▬▬ ▬▬ ▬▬ ▬▬▬ ▬ ▬▬▬▬ ▬▬ ▬▬▬ ▬▬ ▬ ▬▬▬ ▬▬▬▬ ▬▬ ▬ ▬▬▬ ▬▬ ▬▬ ▬▬▬ ▬ ▬▬▬▬ ▬▬ ▬▬▬ ▬▬ ▬ ▬▬▬ ▬▬▬▬ ▬▬ ▬ ▬▬▬ ▬▬ ▬▬ ▬▬▬ ▬ ▬▬▬▬ ▬▬ ▬▬▬ ▬▬ ▬ ▬▬▬ ▬▬▬▬ ▬▬ ▬ ▬▬▬ ▬▬ ▬▬ ▬▬▬ ▬ ▬▬▬▬ ▬▬ ▬▬▬ ▬▬ ▬ ▬▬▬ ▬▬▬▬ ▬▬ ▬ ▬▬▬ ▬▬ ▬▬ ▬▬▬ ▬ ▬▬▬▬ ▬▬ ▬▬▬ ▬▬ ▬ ▬▬▬ ▬▬▬▬ ▬▬ ▬ ▬▬▬ ▬▬ ▬▬ ▬▬▬ ▬ ▬▬▬▬ ▬▬ ▬▬▬ ▬▬ ▬ ▬▬▬ ▬▬▬▬ ▬▬ ▬ ▬▬▬ ▬▬ ▬▬ ▬▬▬ ▬ ▬▬▬▬ ▬▬ ▬▬▬ ▬▬ ▬ ▬▬▬ ▬▬▬▬ ▬▬ ▬ ▬▬▬ ▬▬ ▬▬ ▬▬▬ ▬ ▬▬▬▬ ▬▬ ▬▬▬ ▬▬ ▬ ▬▬▬ ▬▬▬▬ ▬▬ ▬ ▬▬▬ ▬▬ ▬▬ ▬▬▬ ▬ ▬▬▬▬ ▬▬ ▬▬▬ ▬▬ ▬ ▬▬▬ ▬▬▬▬ ▬▬ ▬ ▬▬▬ ▬▬ ▬▬ ▬▬▬ ▬ ▬▬▬▬ ▬▬ ▬▬▬ ▬▬ ▬ ▬▬▬ ▬▬▬▬ ▬▬ ▬ ▬▬▬ ▬▬ ▬▬ ▬▬▬ ▬ ▬▬▬▬ ▬▬ ▬▬▬ ▬▬ ▬ ▬▬▬ ▬▬▬▬ ▬▬ ▬ ▬▬▬ ▬▬ ▬▬ ▬▬▬ ▬ ▬▬▬▬ ▬▬ ▬▬▬ ▬▬ ▬ ▬▬▬ ▬▬▬▬ ▬▬ ▬ ▬▬▬ ▬▬ ▬▬ ▬▬▬ ▬ ▬▬▬▬ ▬▬ ▬▬▬ ▬▬ ▬ ▬▬▬ ▬▬▬▬ ▬▬ ▬ ▬▬▬ ▬▬ ▬▬ ▬▬▬ ▬ ▬▬▬▬ ▬▬ ▬▬▬ ▬▬ ▬ ▬▬▬ ▬▬▬▬ ▬▬ ▬ ▬▬▬ ▬▬ ▬▬ ▬▬▬ ▬ ▬▬▬▬ ▬▬ ▬▬▬ ▬▬ ▬ ▬▬▬ ▬▬▬▬ ▬▬ ▬ ▬▬▬ ▬▬ ▬▬ ▬▬▬ ▬ ▬▬▬▬ ▬▬ ▬▬▬ ▬▬ ▬ ▬▬▬ ▬▬▬▬ ▬▬ ▬ ▬▬▬ ▬▬ ▬▬ ▬▬▬ ▬ ▬▬▬▬ ▬▬ ▬▬▬ ▬▬ ▬ ▬▬▬ ▬▬▬▬ ▬▬ ▬ ▬▬▬ ▬▬ ▬▬ ▬▬▬ ▬ ▬▬▬▬ ▬▬ ▬▬▬ ▬▬ ▬ ▬▬▬ ▬▬▬▬ ▬▬ ▬ ▬▬▬ ▬▬ ▬▬ ▬▬▬ ▬ ▬▬▬▬ ▬▬ ▬▬▬ ▬▬ ▬ ▬▬▬ ▬▬▬▬ ▬▬ ▬ ▬▬▬ ▬▬ ▬▬ ▬▬▬ ▬ ▬▬▬▬ ▬▬ ▬▬▬ ▬▬ ▬ ▬▬▬ ▬▬▬▬ ▬▬ ▬ ▬▬▬ ▬▬ ▬▬ ▬▬▬ ▬ ▬▬▬▬ ▬▬ ▬▬▬ ▬▬ ▬ ▬▬▬ ▬▬▬▬ ▬▬ ▬ ▬▬▬ ▬▬ ▬▬ ▬▬▬ ▬ ▬▬▬▬ ▬▬ ▬▬▬ ▬▬ ▬ ▬▬▬ ▬▬▬▬ ▬▬ ▬ ▬▬▬ ▬▬ ▬▬ ▬▬▬ ▬ ▬▬▬▬ ▬▬ ▬▬▬ ▬▬ ▬ ▬▬▬ ▬▬▬▬ ▬▬ ▬ ▬▬▬ ▬▬ ▬▬ ▬▬▬ ▬ ▬▬▬▬ ▬▬ ▬▬▬ ▬▬ ▬ ▬▬▬ ▬▬▬▬ ▬▬ ▬ ▬▬▬ ▬▬ ▬▬ ▬▬▬ ▬ ▬▬▬▬ ▬▬ ▬▬▬ ▬▬ ▬ ▬▬▬ ▬▬▬▬ ▬▬ ▬ ▬▬▬ ▬▬ ▬▬ ▬▬▬ ▬ ▬▬▬▬ ▬▬ ▬▬▬ ▬▬ ▬ ▬▬▬ ▬▬▬▬ ▬▬ ▬ ▬▬▬ ▬▬ ▬▬ ▬▬▬ ▬ ▬▬▬▬ ▬▬ ▬▬▬ ▬▬ ▬ ▬▬▬ ▬▬▬▬ ▬▬ ▬ ▬▬▬ ▬▬ ▬▬ ▬▬▬ ▬ ▬▬▬▬ ▬▬ ▬▬▬ ▬▬ ▬ ▬▬▬ ▬▬▬▬ ▬▬ ▬ ▬▬▬ ▬▬ ▬▬ ▬▬▬ ▬ ▬▬▬▬ ▬▬ ▬▬▬ ▬▬ ▬ ▬▬▬ ▬▬▬▬ ▬▬ ▬ ▬▬▬ ▬▬ ▬▬ ▬▬▬ ▬ ▬▬▬▬ ▬▬ ▬▬▬ ▬▬ ▬ ▬▬▬ ▬▬▬▬ ▬▬ ▬ ▬▬▬ ▬▬ ▬▬ ▬▬▬ ▬ ▬▬▬▬ ▬▬ ▬▬▬ ▬▬ ▬ ▬▬▬ ▬▬▬▬ ▬▬ ▬ ▬▬▬ ▬▬ ▬▬ ▬▬▬ ▬ ▬▬▬▬ ▬▬ ▬▬▬ ▬▬ ▬ ▬▬▬ ▬▬▬▬ ▬▬ ▬ ▬▬▬ ▬▬ ▬▬ ▬▬▬ ▬ ▬▬▬▬ ▬▬ ▬▬▬ ▬▬ ▬ ▬▬▬ ▬▬▬▬ ▬▬ ▬ ▬▬▬ ▬▬ ▬▬ ▬▬▬ ▬ ▬▬▬▬ ▬▬ ▬▬▬ ▬▬ ▬ ▬▬▬ ▬▬▬▬ ▬▬ ▬ ▬▬▬ ▬▬ ▬▬ ▬▬▬ ▬ ▬▬▬▬ ▬▬ ▬▬▬ ▬▬ ▬ ▬▬▬ ▬▬▬▬ ▬▬ ▬ ▬▬▬ ▬▬ ▬▬ ▬▬▬ ▬ ▬▬▬▬ ▬▬ ▬▬▬ ▬▬ ▬ ▬▬▬ ▬▬▬▬ ▬▬ ▬ ▬▬▬ ▬▬ ▬▬ ▬▬▬ ▬ ▬▬▬▬ ▬▬ ▬▬▬ ▬▬ ▬ ▬▬▬ ▬▬▬▬ ▬▬ ▬ ▬▬▬ ▬▬ ▬▬ ▬▬▬ ▬ ▬▬▬▬ ▬▬ ▬▬▬ ▬▬ ▬ ▬▬▬ ▬▬▬▬ ▬▬ ▬ ▬▬▬ ▬▬
▬▬ ▬▬▬ ▬ ▬▬▬▬ ▬▬ ▬▬▬ ▬▬ ▬ ▬▬▬ ▬▬▬▬ ▬▬ ▬ ▬▬▬ ▬▬ ▬▬ ▬▬▬ ▬ ▬▬▬▬ ▬▬ ▬▬▬ ▬▬ ▬ ▬▬▬ ▬▬▬▬ ▬▬ ▬ ▬▬▬ ▬▬ ▬▬ ▬▬▬ ▬ ▬▬▬▬ ▬▬ ▬▬▬ ▬▬ ▬ ▬▬▬ ▬▬▬▬ ▬▬ ▬ ▬▬▬ ▬▬ ▬▬ ▬▬▬ ▬ ▬▬▬▬ ▬▬ ▬▬▬ ▬▬ ▬ ▬▬▬ ▬▬▬▬ ▬▬ ▬ ▬▬▬ ▬▬ ▬▬ ▬▬▬ ▬ ▬▬▬▬ ▬▬ ▬▬▬ ▬▬ ▬ ▬▬▬ ▬▬▬▬ ▬▬ ▬ ▬▬▬ ▬▬ ▬▬ ▬▬▬ ▬ ▬▬▬▬ ▬▬ ▬▬▬ ▬▬ ▬ ▬▬▬ ▬▬▬▬ ▬▬ ▬ ▬▬▬ ▬▬ ▬▬ ▬▬▬ ▬ ▬▬▬▬ ▬▬ ▬▬▬ ▬▬ ▬ ▬▬▬ ▬▬▬▬ ▬▬ ▬ ▬▬▬ ▬▬ ▬▬ ▬▬▬ ▬ ▬▬▬▬ ▬▬ ▬▬▬ ▬▬ ▬ ▬▬▬ ▬▬▬▬ ▬▬ ▬ ▬▬▬ ▬▬ ▬▬ ▬▬▬ ▬ ▬▬▬▬ ▬▬ ▬▬▬ ▬▬ ▬ ▬▬▬ ▬▬▬▬ ▬▬ ▬ ▬▬▬ ▬▬ ▬▬ ▬▬▬ ▬ ▬▬▬▬ ▬▬ ▬▬▬ ▬▬ ▬ ▬▬▬ ▬▬▬▬ ▬▬ ▬ ▬▬▬ ▬▬ ▬▬ ▬▬▬ ▬ ▬▬▬▬ ▬▬ ▬▬▬ ▬▬ ▬ ▬▬▬ ▬▬▬▬ ▬▬ ▬ ▬▬▬ ▬▬ ▬▬ ▬▬▬ ▬ ▬▬▬▬ ▬▬ ▬▬▬ ▬▬ ▬ ▬▬▬ ▬▬▬▬ ▬▬ ▬ ▬▬▬ ▬▬ ▬▬ ▬▬▬ ▬ ▬▬▬▬ ▬▬ ▬▬▬ ▬▬ ▬ ▬▬▬ ▬▬▬▬ ▬▬ ▬ ▬▬▬ ▬▬ ▬▬ ▬▬▬ ▬ ▬▬▬▬ ▬▬ ▬▬▬ ▬▬ ▬ ▬▬▬ ▬▬▬▬ ▬▬ ▬ ▬▬▬ ▬▬ ▬▬ ▬▬▬ ▬ ▬▬▬▬ ▬▬ ▬▬▬ ▬▬ ▬ ▬▬▬ ▬▬▬▬ ▬▬ ▬ ▬▬▬ ▬▬ ▬▬ ▬▬▬ ▬ ▬▬▬▬ ▬▬ ▬▬▬ ▬▬ ▬ ▬▬▬ ▬▬▬▬ ▬▬ ▬ ▬▬▬ ▬▬ ▬▬ ▬▬▬ ▬ ▬▬▬▬ ▬▬ ▬▬▬ ▬▬ ▬ ▬▬▬ ▬▬▬▬ ▬▬ ▬ ▬▬▬ ▬▬ ▬▬ ▬▬▬ ▬ ▬▬▬▬ ▬▬ ▬▬▬ ▬▬ ▬ ▬▬▬ ▬▬▬▬ ▬▬ ▬ ▬▬▬ ▬▬ ▬▬ ▬▬▬ ▬ ▬▬▬▬ ▬▬ ▬▬▬ ▬▬ ▬ ▬▬▬ ▬▬▬▬ ▬▬ ▬ ▬▬▬ ▬▬ ▬▬ ▬▬▬ ▬ ▬▬▬▬ ▬▬ ▬▬▬ ▬▬ ▬ ▬▬▬ ▬▬▬▬ ▬▬ ▬ ▬▬▬ ▬▬ ▬▬ ▬▬▬ ▬ ▬▬▬▬ ▬▬ ▬▬▬ ▬▬ ▬ ▬▬▬ ▬▬▬▬ ▬▬ ▬ ▬▬▬ ▬▬ ▬▬ ▬▬▬ ▬ ▬▬▬▬ ▬▬ ▬▬▬ ▬▬ ▬ ▬▬▬ ▬▬▬▬ ▬▬ ▬ ▬▬▬ ▬▬ ▬▬ ▬▬▬ ▬ ▬▬▬▬ ▬▬ ▬▬▬ ▬▬ ▬ ▬▬▬ ▬▬▬▬ ▬▬ ▬ ▬▬▬ ▬▬ ▬▬ ▬▬▬ ▬ ▬▬▬▬ ▬▬ ▬▬▬ ▬▬ ▬ ▬▬▬ ▬▬▬▬ ▬▬ ▬ ▬▬▬ ▬▬ ▬▬ ▬▬▬ ▬ ▬▬▬▬ ▬▬ ▬▬▬ ▬▬ ▬ ▬▬▬ ▬▬▬▬ ▬▬ ▬ ▬▬▬ ▬▬ ▬▬ ▬▬▬ ▬ ▬▬▬▬ ▬▬ ▬▬▬ ▬▬ ▬ ▬▬▬ ▬▬▬▬ ▬▬ ▬ ▬▬▬ ▬▬ ▬▬ ▬▬▬ ▬ ▬▬▬▬ ▬▬ ▬▬▬ ▬▬ ▬ ▬▬▬ ▬▬▬▬ ▬▬ ▬ ▬▬▬ ▬▬ ▬▬ ▬▬▬ ▬ ▬▬▬▬ ▬▬ ▬▬▬ ▬▬ ▬ ▬▬▬ ▬▬▬▬ ▬▬ ▬ ▬▬▬ ▬▬ ▬▬ ▬▬▬ ▬ ▬▬▬▬ ▬▬ ▬▬▬ ▬▬ ▬ ▬▬▬ ▬▬▬▬ ▬▬ ▬ ▬▬▬ ▬▬ ▬▬ ▬▬▬ ▬ ▬▬▬▬ ▬▬ ▬▬▬ ▬▬ ▬ ▬▬▬ ▬▬▬▬ ▬▬ ▬ ▬▬▬ ▬▬ ▬▬ ▬▬▬ ▬ ▬▬▬▬ ▬▬ ▬▬▬ ▬▬ ▬ ▬▬▬ ▬▬▬▬ ▬▬ ▬ ▬▬▬ ▬▬ ▬▬ ▬▬▬ ▬ ▬▬▬▬ ▬▬ ▬▬▬ ▬▬ ▬ ▬▬▬ ▬▬▬▬ ▬▬ ▬ ▬▬▬ ▬▬ ▬▬ ▬▬▬ ▬ ▬▬▬▬ ▬▬ ▬▬▬ ▬▬ ▬ ▬▬▬ ▬▬▬▬ ▬▬ ▬ ▬▬▬ ▬▬ ▬▬ ▬▬▬ ▬ ▬▬▬▬ ▬▬ ▬▬▬ ▬▬ ▬ ▬▬▬ ▬▬▬▬ ▬▬ ▬ ▬▬▬ ▬▬ ▬▬ ▬▬▬ ▬ ▬▬▬▬ ▬▬ ▬▬▬ ▬▬ ▬ ▬▬▬ ▬▬▬▬ ▬▬ ▬ ▬▬▬ ▬▬ ▬▬ ▬▬▬ ▬ ▬▬▬▬ ▬▬ ▬▬▬ ▬▬ ▬ ▬▬▬ ▬▬▬▬ ▬▬ ▬ ▬▬▬ ▬▬ ▬▬ ▬▬▬ ▬ ▬▬▬▬ ▬▬ ▬▬▬ ▬▬ ▬ ▬▬▬ ▬▬▬▬ ▬▬ ▬ ▬▬▬ ▬▬ ▬▬ ▬▬▬ ▬ ▬▬▬▬ ▬▬ ▬▬▬ ▬▬ ▬ ▬▬▬ ▬▬▬▬ ▬▬ ▬ ▬▬▬ ▬▬ ▬▬ ▬▬▬ ▬ ▬▬▬▬ ▬▬ ▬▬▬ ▬▬ ▬ ▬▬▬ ▬▬▬▬ ▬▬ ▬ ▬▬▬ ▬▬ ▬▬ ▬▬▬ ▬ ▬▬▬▬ ▬▬ ▬▬▬ ▬▬ ▬ ▬▬▬ ▬▬▬▬ ▬▬ ▬ ▬▬▬ ▬▬ ▬▬ ▬▬▬ ▬ ▬▬▬▬ ▬▬ ▬▬▬ ▬▬ ▬ ▬▬▬ ▬▬▬▬ ▬▬ ▬ ▬▬▬ ▬▬ ▬▬ ▬▬▬ ▬ ▬▬▬▬ ▬▬ ▬▬▬ ▬▬ ▬ ▬▬▬ ▬▬▬▬ ▬▬ ▬ ▬▬▬ ▬▬ ▬▬ ▬▬▬ ▬ ▬▬▬▬ ▬▬ ▬▬▬ ▬▬ ▬ ▬▬▬ ▬▬▬▬ ▬▬ ▬ ▬▬▬ ▬▬ ▬▬ ▬▬▬ ▬ ▬▬▬▬ ▬▬ ▬▬▬ ▬▬ ▬ ▬▬▬ ▬▬▬▬ ▬▬ ▬ ▬▬▬ ▬▬ ▬▬ ▬▬▬ ▬ ▬▬▬▬ ▬▬ ▬▬▬ ▬▬ ▬ ▬▬▬ ▬▬▬▬ ▬▬ ▬ ▬▬▬ ▬▬ ▬▬ ▬▬▬ ▬ ▬▬▬▬ ▬▬ ▬▬▬ ▬▬ ▬ ▬▬▬ ▬▬▬▬ ▬▬ ▬ ▬▬▬ ▬▬ ▬▬ ▬▬▬ ▬ ▬▬▬▬ ▬▬ ▬▬▬ ▬▬ ▬ ▬▬▬ ▬▬▬▬ ▬▬ ▬ ▬▬▬ ▬▬ ▬▬ ▬▬▬ ▬ ▬▬▬▬ ▬▬ ▬▬▬ ▬▬ ▬ ▬▬▬ ▬▬▬▬ ▬▬ ▬ ▬▬▬ ▬▬ ▬▬ ▬▬▬ ▬ ▬▬▬▬ ▬▬ ▬▬▬ ▬▬ ▬ ▬▬▬ ▬▬▬▬ ▬▬ ▬ ▬▬▬ ▬▬ ▬▬ ▬▬▬ ▬ ▬▬▬▬ ▬▬ ▬▬▬ ▬▬ ▬ ▬▬▬ ▬▬▬▬ ▬▬ ▬ ▬▬▬ ▬▬ ▬▬ ▬▬▬ ▬ ▬▬▬▬ ▬▬ ▬▬▬ ▬▬ ▬ ▬▬▬ ▬▬▬▬ ▬▬ ▬ ▬▬▬ ▬▬ ▬▬ ▬▬▬ ▬ ▬▬▬▬ ▬▬ ▬▬▬ ▬▬ ▬ ▬▬▬ ▬▬▬▬ ▬▬ ▬ ▬▬▬ ▬▬ ▬▬ ▬▬▬ ▬ ▬▬▬▬ ▬▬ ▬▬▬ ▬▬ ▬ ▬▬▬ ▬▬▬▬ ▬▬ ▬ ▬▬▬ ▬▬ ▬▬ ▬▬▬ ▬ ▬▬▬▬ ▬▬ ▬▬▬ ▬▬ ▬ ▬▬▬ ▬▬▬▬ ▬▬ ▬ ▬▬▬ ▬▬ ▬▬ ▬▬▬ ▬ ▬▬▬▬ ▬▬ ▬▬▬ ▬▬ ▬ ▬▬▬ ▬▬▬▬ ▬▬ ▬ ▬▬▬ ▬▬ ▬▬ ▬▬▬ ▬ ▬▬▬▬ ▬▬ ▬▬▬ ▬▬ ▬ ▬▬▬ ▬▬▬▬ ▬▬ ▬ ▬▬▬ ▬▬ ▬▬ ▬▬▬ ▬ ▬▬▬▬ ▬▬ ▬▬▬ ▬▬ ▬ ▬▬▬ ▬▬▬▬ ▬▬ ▬ ▬▬▬ ▬▬ ▬▬ ▬▬▬ ▬ ▬▬▬▬ ▬▬ ▬▬▬ ▬▬ ▬ ▬▬▬ ▬▬▬▬ ▬▬ ▬ ▬▬▬ ▬▬ ▬▬ ▬▬▬ ▬ ▬▬▬▬ ▬▬ ▬▬▬ ▬▬ ▬ ▬▬▬ ▬▬▬▬ ▬▬ ▬ ▬▬▬ ▬▬ ▬▬ ▬▬▬ ▬ ▬▬▬▬ ▬▬ ▬▬▬ ▬▬ ▬ ▬▬▬ ▬▬▬▬ ▬▬ ▬ ▬▬▬ ▬▬
▬▬ ▬▬▬ ▬ ▬▬▬▬ ▬▬ ▬▬▬ ▬▬ ▬ ▬▬▬ ▬▬▬▬ ▬▬ ▬ ▬▬▬ ▬▬ ▬▬ ▬▬▬ ▬ ▬▬▬▬ ▬▬ ▬▬▬ ▬▬ ▬ ▬▬▬ ▬▬▬▬ ▬▬ ▬ ▬▬▬ ▬▬ ▬▬ ▬▬▬ ▬ ▬▬▬▬ ▬▬ ▬▬▬ ▬▬ ▬ ▬▬▬ ▬▬▬▬ ▬▬ ▬ ▬▬▬ ▬▬ ▬▬ ▬▬▬ ▬ ▬▬▬▬ ▬▬ ▬▬▬ ▬▬ ▬ ▬▬▬ ▬▬▬▬ ▬▬ ▬ ▬▬▬ ▬▬ ▬▬ ▬▬▬ ▬ ▬▬▬▬ ▬▬ ▬▬▬ ▬▬ ▬ ▬▬▬ ▬▬▬▬ ▬▬ ▬ ▬▬▬ ▬▬ ▬▬ ▬▬▬ ▬ ▬▬▬▬ ▬▬ ▬▬▬ ▬▬ ▬ ▬▬▬ ▬▬▬▬ ▬▬ ▬ ▬▬▬ ▬▬ ▬▬ ▬▬▬ ▬ ▬▬▬▬ ▬▬ ▬▬▬ ▬▬ ▬ ▬▬▬ ▬▬▬▬ ▬▬ ▬ ▬▬▬ ▬▬ ▬▬ ▬▬▬ ▬ ▬▬▬▬ ▬▬ ▬▬▬ ▬▬ ▬ ▬▬▬ ▬▬▬▬ ▬▬ ▬ ▬▬▬ ▬▬ ▬▬ ▬▬▬ ▬ ▬▬▬▬ ▬▬ ▬▬▬ ▬▬ ▬ ▬▬▬ ▬▬▬▬ ▬▬ ▬ ▬▬▬ ▬▬ ▬▬ ▬▬▬ ▬ ▬▬▬▬ ▬▬ ▬▬▬ ▬▬ ▬ ▬▬▬ ▬▬▬▬ ▬▬ ▬ ▬▬▬ ▬▬ ▬▬ ▬▬▬ ▬ ▬▬▬▬ ▬▬ ▬▬▬ ▬▬ ▬ ▬▬▬ ▬▬▬▬ ▬▬ ▬ ▬▬▬ ▬▬ ▬▬ ▬▬▬ ▬ ▬▬▬▬ ▬▬ ▬▬▬ ▬▬ ▬ ▬▬▬ ▬▬▬▬ ▬▬ ▬ ▬▬▬ ▬▬ ▬▬ ▬▬▬ ▬ ▬▬▬▬ ▬▬ ▬▬▬ ▬▬ ▬ ▬▬▬ ▬▬▬▬ ▬▬ ▬ ▬▬▬ ▬▬ ▬▬ ▬▬▬ ▬ ▬▬▬▬ ▬▬ ▬▬▬ ▬▬ ▬ ▬▬▬ ▬▬▬▬ ▬▬ ▬ ▬▬▬ ▬▬ ▬▬ ▬▬▬ ▬ ▬▬▬▬ ▬▬ ▬▬▬ ▬▬ ▬ ▬▬▬ ▬▬▬▬ ▬▬ ▬ ▬▬▬ ▬▬ ▬▬ ▬▬▬ ▬ ▬▬▬▬ ▬▬ ▬▬▬ ▬▬ ▬ ▬▬▬ ▬▬▬▬ ▬▬ ▬ ▬▬▬ ▬▬ ▬▬ ▬▬▬ ▬ ▬▬▬▬ ▬▬ ▬▬▬ ▬▬ ▬ ▬▬▬ ▬▬▬▬ ▬▬ ▬ ▬▬▬ ▬▬ ▬▬ ▬▬▬ ▬ ▬▬▬▬ ▬▬ ▬▬▬ ▬▬ ▬ ▬▬▬ ▬▬▬▬ ▬▬ ▬ ▬▬▬ ▬▬ ▬▬ ▬▬▬ ▬ ▬▬▬▬ ▬▬ ▬▬▬ ▬▬ ▬ ▬▬▬ ▬▬▬▬ ▬▬ ▬ ▬▬▬ ▬▬ ▬▬ ▬▬▬ ▬ ▬▬▬▬ ▬▬ ▬▬▬ ▬▬ ▬ ▬▬▬ ▬▬▬▬ ▬▬ ▬ ▬▬▬ ▬▬ ▬▬ ▬▬▬ ▬ ▬▬▬▬ ▬▬ ▬▬▬ ▬▬ ▬ ▬▬▬ ▬▬▬▬ ▬▬ ▬ ▬▬▬ ▬▬ ▬▬ ▬▬▬ ▬ ▬▬▬▬ ▬▬ ▬▬▬ ▬▬ ▬ ▬▬▬ ▬▬▬▬ ▬▬ ▬ ▬▬▬ ▬▬ ▬▬ ▬▬▬ ▬ ▬▬▬▬ ▬▬ ▬▬▬ ▬▬ ▬ ▬▬▬ ▬▬▬▬ ▬▬ ▬ ▬▬▬ ▬▬ ▬▬ ▬▬▬ ▬ ▬▬▬▬ ▬▬ ▬▬▬ ▬▬ ▬ ▬▬▬ ▬▬▬▬ ▬▬ ▬ ▬▬▬ ▬▬ ▬▬ ▬▬▬ ▬ ▬▬▬▬ ▬▬ ▬▬▬ ▬▬ ▬ ▬▬▬ ▬▬▬▬ ▬▬ ▬ ▬▬▬ ▬▬ ▬▬ ▬▬▬ ▬ ▬▬▬▬ ▬▬ ▬▬▬ ▬▬ ▬ ▬▬▬ ▬▬▬▬ ▬▬ ▬ ▬▬▬ ▬▬ ▬▬ ▬▬▬ ▬ ▬▬▬▬ ▬▬ ▬▬▬ ▬▬ ▬ ▬▬▬ ▬▬▬▬ ▬▬ ▬ ▬▬▬ ▬▬ ▬▬ ▬▬▬ ▬ ▬▬▬▬ ▬▬ ▬▬▬ ▬▬ ▬ ▬▬▬ ▬▬▬▬ ▬▬ ▬ ▬▬▬ ▬▬ ▬▬ ▬▬▬ ▬ ▬▬▬▬ ▬▬ ▬▬▬ ▬▬ ▬ ▬▬▬ ▬▬▬▬ ▬▬ ▬ ▬▬▬ ▬▬ ▬▬ ▬▬▬ ▬ ▬▬▬▬ ▬▬ ▬▬▬ ▬▬ ▬ ▬▬▬ ▬▬▬▬ ▬▬ ▬ ▬▬▬ ▬▬ ▬▬ ▬▬▬ ▬ ▬▬▬▬ ▬▬ ▬▬▬ ▬▬ ▬ ▬▬▬ ▬▬▬▬ ▬▬ ▬ ▬▬▬ ▬▬ ▬▬ ▬▬▬ ▬ ▬▬▬▬ ▬▬ ▬▬▬ ▬▬ ▬ ▬▬▬ ▬▬▬▬ ▬▬ ▬ ▬▬▬ ▬▬ ▬▬ ▬▬▬ ▬ ▬▬▬▬ ▬▬ ▬▬▬ ▬▬ ▬ ▬▬▬ ▬▬▬▬ ▬▬ ▬ ▬▬▬ ▬▬ ▬▬ ▬▬▬ ▬ ▬▬▬▬ ▬▬ ▬▬▬ ▬▬ ▬ ▬▬▬ ▬▬▬▬ ▬▬ ▬ ▬▬▬ ▬▬ ▬▬ ▬▬▬ ▬ ▬▬▬▬ ▬▬ ▬▬▬ ▬▬ ▬ ▬▬▬ ▬▬▬▬ ▬▬ ▬ ▬▬▬ ▬▬ ▬▬ ▬▬▬ ▬ ▬▬▬▬ ▬▬ ▬▬▬ ▬▬ ▬ ▬▬▬ ▬▬▬▬ ▬▬ ▬ ▬▬▬ ▬▬ ▬▬ ▬▬▬ ▬ ▬▬▬▬ ▬▬ ▬▬▬ ▬▬ ▬ ▬▬▬ ▬▬▬▬ ▬▬ ▬ ▬▬▬ ▬▬ ▬▬ ▬▬▬ ▬ ▬▬▬▬ ▬▬ ▬▬▬ ▬▬ ▬ ▬▬▬ ▬▬▬▬ ▬▬ ▬ ▬▬▬ ▬▬ ▬▬ ▬▬▬ ▬ ▬▬▬▬ ▬▬ ▬▬▬ ▬▬ ▬ ▬▬▬ ▬▬▬▬ ▬▬ ▬ ▬▬▬ ▬▬ ▬▬ ▬▬▬ ▬ ▬▬▬▬ ▬▬ ▬▬▬ ▬▬ ▬ ▬▬▬ ▬▬▬▬ ▬▬ ▬ ▬▬▬ ▬▬ ▬▬ ▬▬▬ ▬ ▬▬▬▬ ▬▬ ▬▬▬ ▬▬ ▬ ▬▬▬ ▬▬▬▬ ▬▬ ▬ ▬▬▬ ▬▬ ▬▬ ▬▬▬ ▬ ▬▬▬▬ ▬▬ ▬▬▬ ▬▬ ▬ ▬▬▬ ▬▬▬▬ ▬▬ ▬ ▬▬▬ ▬▬ ▬▬ ▬▬▬ ▬ ▬▬▬▬ ▬▬ ▬▬▬ ▬▬ ▬ ▬▬▬ ▬▬▬▬ ▬▬ ▬ ▬▬▬ ▬▬ ▬▬ ▬▬▬ ▬ ▬▬▬▬ ▬▬ ▬▬▬ ▬▬ ▬ ▬▬▬ ▬▬▬▬ ▬▬ ▬ ▬▬▬ ▬▬ ▬▬ ▬▬▬ ▬ ▬▬▬▬ ▬▬ ▬▬▬ ▬▬ ▬ ▬▬▬ ▬▬▬▬ ▬▬ ▬ ▬▬▬ ▬▬ ▬▬ ▬▬▬ ▬ ▬▬▬▬ ▬▬ ▬▬▬ ▬▬ ▬ ▬▬▬ ▬▬▬▬ ▬▬ ▬ ▬▬▬ ▬▬ ▬▬ ▬▬▬ ▬ ▬▬▬▬ ▬▬ ▬▬▬ ▬▬ ▬ ▬▬▬ ▬▬▬▬ ▬▬ ▬ ▬▬▬ ▬▬ ▬▬ ▬▬▬ ▬ ▬▬▬▬ ▬▬ ▬▬▬ ▬▬ ▬ ▬▬▬ ▬▬▬▬ ▬▬ ▬ ▬▬▬ ▬▬ ▬▬ ▬▬▬ ▬ ▬▬▬▬ ▬▬ ▬▬▬ ▬▬ ▬ ▬▬▬ ▬▬▬▬ ▬▬ ▬ ▬▬▬ ▬▬ ▬▬ ▬▬▬ ▬ ▬▬▬▬ ▬▬ ▬▬▬ ▬▬ ▬ ▬▬▬ ▬▬▬▬ ▬▬ ▬ ▬▬▬ ▬▬ ▬▬ ▬▬▬ ▬ ▬▬▬▬ ▬▬ ▬▬▬ ▬▬ ▬ ▬▬▬ ▬▬▬▬ ▬▬ ▬ ▬▬▬ ▬▬ ▬▬ ▬▬▬ ▬ ▬▬▬▬ ▬▬ ▬▬▬ ▬▬ ▬ ▬▬▬ ▬▬▬▬ ▬▬ ▬ ▬▬▬ ▬▬ ▬▬ ▬▬▬ ▬ ▬▬▬▬ ▬▬ ▬▬▬ ▬▬ ▬ ▬▬▬ ▬▬▬▬ ▬▬ ▬ ▬▬▬ ▬▬ ▬▬ ▬▬▬ ▬ ▬▬▬▬ ▬▬ ▬▬▬ ▬▬ ▬ ▬▬▬ ▬▬▬▬ ▬▬ ▬ ▬▬▬ ▬▬ ▬▬ ▬▬▬ ▬ ▬▬▬▬ ▬▬ ▬▬▬ ▬▬ ▬ ▬▬▬ ▬▬▬▬ ▬▬ ▬ ▬▬▬ ▬▬ ▬▬ ▬▬▬ ▬ ▬▬▬▬ ▬▬ ▬▬▬ ▬▬ ▬ ▬▬▬ ▬▬▬▬ ▬▬ ▬ ▬▬▬ ▬▬ ▬▬ ▬▬▬ ▬ ▬▬▬▬ ▬▬ ▬▬▬ ▬▬ ▬ ▬▬▬ ▬▬▬▬ ▬▬ ▬ ▬▬▬ ▬▬ ▬▬ ▬▬▬ ▬ ▬▬▬▬ ▬▬ ▬▬▬ ▬▬ ▬ ▬▬▬ ▬▬▬▬ ▬▬ ▬ ▬▬▬ ▬▬ ▬▬ ▬▬▬ ▬ ▬▬▬▬ ▬▬ ▬▬▬ ▬▬ ▬ ▬▬▬ ▬▬▬▬ ▬▬ ▬ ▬▬▬ ▬▬ ▬▬ ▬▬▬ ▬ ▬▬▬▬ ▬▬ ▬▬▬ ▬▬ ▬ ▬▬▬ ▬▬▬▬ ▬▬ ▬ ▬▬▬ ▬▬
बच्चों की उच्च शिक्षा में सहयोग करेगी राजपूत महासभा: चौहान
▬▬ ▬▬▬ ▬ ▬▬▬▬ ▬▬ ▬▬▬ ▬▬ ▬ ▬▬▬ ▬▬▬▬ ▬▬ ▬ ▬▬▬ ▬▬ ▬▬ ▬▬▬ ▬ ▬▬▬▬ ▬▬ ▬▬▬ ▬▬ ▬ ▬▬▬ ▬▬▬▬ ▬▬ ▬ ▬▬▬ ▬▬ ▬▬ ▬▬▬ ▬ ▬▬▬▬ ▬▬ ▬▬▬ ▬▬ ▬ ▬▬▬ ▬▬▬▬ ▬▬ ▬ ▬▬▬ ▬▬ ▬▬ ▬▬▬ ▬ ▬▬▬▬ ▬▬ ▬▬▬ ▬▬ ▬ ▬▬▬ ▬▬▬▬ ▬▬ ▬ ▬▬▬ ▬▬ ▬▬ ▬▬▬ ▬ ▬▬▬▬ ▬▬ ▬▬▬ ▬▬ ▬ ▬▬▬ ▬▬▬▬ ▬▬ ▬ ▬▬▬ ▬▬ ▬▬ ▬▬▬ ▬ ▬▬▬▬ ▬▬ ▬▬▬ ▬▬ ▬ ▬▬▬ ▬▬▬▬ ▬▬ ▬ ▬▬▬ ▬▬ ▬▬ ▬▬▬ ▬ ▬▬▬▬ ▬▬ ▬▬▬ ▬▬ ▬ ▬▬▬ ▬▬▬▬ ▬▬ ▬ ▬▬▬ ▬▬ ▬▬ ▬▬▬ ▬ ▬▬▬▬ ▬▬ ▬▬▬ ▬▬ ▬ ▬▬▬ ▬▬▬▬ ▬▬ ▬ ▬▬▬ ▬▬ ▬▬ ▬▬▬ ▬ ▬▬▬▬ ▬▬ ▬▬▬ ▬▬ ▬ ▬▬▬ ▬▬▬▬ ▬▬ ▬ ▬▬▬ ▬▬ ▬▬ ▬▬▬ ▬ ▬▬▬▬ ▬▬ ▬▬▬ ▬▬ ▬ ▬▬▬ ▬▬▬▬ ▬▬ ▬ ▬▬▬ ▬▬ ▬▬ ▬▬▬ ▬ ▬▬▬▬ ▬▬ ▬▬▬ ▬▬ ▬ ▬▬▬ ▬▬▬▬ ▬▬ ▬ ▬▬▬ ▬▬ ▬▬ ▬▬▬ ▬ ▬▬▬▬ ▬▬ ▬▬▬ ▬▬ ▬ ▬▬▬ ▬▬▬▬ ▬▬ ▬ ▬▬▬ ▬▬ ▬▬ ▬▬▬ ▬ ▬▬▬▬ ▬▬ ▬▬▬ ▬▬ ▬ ▬▬▬ ▬▬▬▬ ▬▬ ▬ ▬▬▬ ▬▬ ▬▬ ▬▬▬ ▬ ▬▬▬▬ ▬▬ ▬▬▬ ▬▬ ▬ ▬▬▬ ▬▬▬▬ ▬▬ ▬ ▬▬▬ ▬▬ ▬▬ ▬▬▬ ▬ ▬▬▬▬ ▬▬ ▬▬▬ ▬▬ ▬ ▬▬▬ ▬▬▬▬ ▬▬ ▬ ▬▬▬ ▬▬ ▬▬ ▬▬▬ ▬ ▬▬▬▬ ▬▬ ▬▬▬ ▬▬ ▬ ▬▬▬ ▬▬▬▬ ▬▬ ▬ ▬▬▬ ▬▬ ▬▬ ▬▬▬ ▬ ▬▬▬▬ ▬▬ ▬▬▬ ▬▬ ▬ ▬▬▬ ▬▬▬▬ ▬▬ ▬ ▬▬▬ ▬▬ ▬▬ ▬▬▬ ▬ ▬▬▬▬ ▬▬ ▬▬▬ ▬▬ ▬ ▬▬▬ ▬▬▬▬ ▬▬ ▬ ▬▬▬ ▬▬ ▬▬ ▬▬▬ ▬ ▬▬▬▬ ▬▬ ▬▬▬ ▬▬ ▬ ▬▬▬ ▬▬▬▬ ▬▬ ▬ ▬▬▬ ▬▬ ▬▬ ▬▬▬ ▬ ▬▬▬▬ ▬▬ ▬▬▬ ▬▬ ▬ ▬▬▬ ▬▬▬▬ ▬▬ ▬ ▬▬▬ ▬▬ ▬▬ ▬▬▬ ▬ ▬▬▬▬ ▬▬ ▬▬▬ ▬▬ ▬ ▬▬▬ ▬▬▬▬ ▬▬ ▬ ▬▬▬ ▬▬ ▬▬ ▬▬▬ ▬ ▬▬▬▬ ▬▬ ▬▬▬ ▬▬ ▬ ▬▬▬ ▬▬▬▬ ▬▬ ▬ ▬▬▬ ▬▬ ▬▬ ▬▬▬ ▬ ▬▬▬▬ ▬▬ ▬▬▬ ▬▬ ▬ ▬▬▬ ▬▬▬▬ ▬▬ ▬ ▬▬▬ ▬▬ ▬▬ ▬▬▬ ▬ ▬▬▬▬ ▬▬ ▬▬▬ ▬▬ ▬ ▬▬▬ ▬▬▬▬ ▬▬ ▬ ▬▬▬ ▬▬ ▬▬ ▬▬▬ ▬ ▬▬▬▬ ▬▬ ▬▬▬ ▬▬ ▬ ▬▬▬ ▬▬▬▬ ▬▬ ▬ ▬▬▬ ▬▬ ▬▬ ▬▬▬ ▬ ▬▬▬▬ ▬▬ ▬▬▬ ▬▬ ▬ ▬▬▬ ▬▬▬▬ ▬▬ ▬ ▬▬▬ ▬▬ ▬▬ ▬▬▬ ▬ ▬▬▬▬ ▬▬ ▬▬▬ ▬▬ ▬ ▬▬▬ ▬▬▬▬ ▬▬ ▬ ▬▬▬ ▬▬ ▬▬ ▬▬▬ ▬ ▬▬▬▬ ▬▬ ▬▬▬ ▬▬ ▬ ▬▬▬ ▬▬▬▬ ▬▬ ▬ ▬▬▬ ▬▬ ▬▬ ▬▬▬ ▬ ▬▬▬▬ ▬▬ ▬▬▬ ▬▬ ▬ ▬▬▬ ▬▬▬▬ ▬▬ ▬ ▬▬▬ ▬▬ ▬▬ ▬▬▬ ▬ ▬▬▬▬ ▬▬ ▬▬▬ ▬▬ ▬ ▬▬▬ ▬▬▬▬ ▬▬ ▬ ▬▬▬ ▬▬ ▬▬ ▬▬▬ ▬ ▬▬▬▬ ▬▬ ▬▬▬ ▬▬ ▬ ▬▬▬ ▬▬▬▬ ▬▬ ▬ ▬▬▬ ▬▬ ▬▬ ▬▬▬ ▬ ▬▬▬▬ ▬▬ ▬▬▬ ▬▬ ▬ ▬▬▬ ▬▬▬▬ ▬▬ ▬ ▬▬▬ ▬▬ ▬▬ ▬▬▬ ▬ ▬▬▬▬ ▬▬ ▬▬▬ ▬▬ ▬ ▬▬▬ ▬▬▬▬ ▬▬ ▬ ▬▬▬ ▬▬ ▬▬ ▬▬▬ ▬ ▬▬▬▬ ▬▬ ▬▬▬ ▬▬ ▬ ▬▬▬ ▬▬▬▬ ▬▬ ▬ ▬▬▬ ▬▬ ▬▬ ▬▬▬ ▬ ▬▬▬▬ ▬▬ ▬▬▬ ▬▬ ▬ ▬▬▬ ▬▬▬▬ ▬▬ ▬ ▬▬▬ ▬▬ ▬▬ ▬▬▬ ▬ ▬▬▬▬ ▬▬ ▬▬▬ ▬▬ ▬ ▬▬▬ ▬▬▬▬ ▬▬ ▬ ▬▬▬ ▬▬ ▬▬ ▬▬▬ ▬ ▬▬▬▬ ▬▬ ▬▬▬ ▬▬ ▬ ▬▬▬ ▬▬▬▬ ▬▬ ▬ ▬▬▬ ▬▬ ▬▬ ▬▬▬ ▬ ▬▬▬▬ ▬▬ ▬▬▬ ▬▬ ▬ ▬▬▬ ▬▬▬▬ ▬▬ ▬ ▬▬▬ ▬▬ ▬▬ ▬▬▬ ▬ ▬▬▬▬ ▬▬ ▬▬▬ ▬▬ ▬ ▬▬▬ ▬▬▬▬ ▬▬ ▬ ▬▬▬ ▬▬ ▬▬ ▬▬▬ ▬ ▬▬▬▬ ▬▬ ▬▬▬ ▬▬ ▬ ▬▬▬ ▬▬▬▬ ▬▬ ▬ ▬▬▬ ▬▬ ▬▬ ▬▬▬ ▬ ▬▬▬▬ ▬▬ ▬▬▬ ▬▬ ▬ ▬▬▬ ▬▬▬▬ ▬▬ ▬ ▬▬▬ ▬▬ ▬▬ ▬▬▬ ▬ ▬▬▬▬ ▬▬ ▬▬▬ ▬▬ ▬ ▬▬▬ ▬▬▬▬ ▬▬ ▬ ▬▬▬ ▬▬ ▬▬ ▬▬▬ ▬ ▬▬▬▬ ▬▬ ▬▬▬ ▬▬ ▬ ▬▬▬ ▬▬▬▬ ▬▬ ▬ ▬▬▬ ▬▬ ▬▬ ▬▬▬ ▬ ▬▬▬▬ ▬▬ ▬▬▬ ▬▬ ▬ ▬▬▬ ▬▬▬▬ ▬▬ ▬ ▬▬▬ ▬▬ ▬▬ ▬▬▬ ▬ ▬▬▬▬ ▬▬ ▬▬▬ ▬▬ ▬ ▬▬▬ ▬▬▬▬ ▬▬ ▬ ▬▬▬ ▬▬ ▬▬ ▬▬▬ ▬ ▬▬▬▬ ▬▬ ▬▬▬ ▬▬ ▬ ▬▬▬ ▬▬▬▬ ▬▬ ▬ ▬▬▬ ▬▬ ▬▬ ▬▬▬ ▬ ▬▬▬▬ ▬▬ ▬▬▬ ▬▬ ▬ ▬▬▬ ▬▬▬▬ ▬▬ ▬ ▬▬▬ ▬▬ ▬▬ ▬▬▬ ▬ ▬▬▬▬ ▬▬ ▬▬▬ ▬▬ ▬ ▬▬▬ ▬▬▬▬ ▬▬ ▬ ▬▬▬ ▬▬ ▬▬ ▬▬▬ ▬ ▬▬▬▬ ▬▬ ▬▬▬ ▬▬ ▬ ▬▬▬ ▬▬▬▬ ▬▬ ▬ ▬▬▬ ▬▬ ▬▬ ▬▬▬ ▬ ▬▬▬▬ ▬▬ ▬▬▬ ▬▬ ▬ ▬▬▬ ▬▬▬▬ ▬▬ ▬ ▬▬▬ ▬▬ ▬▬ ▬▬▬ ▬ ▬▬▬▬ ▬▬ ▬▬▬ ▬▬ ▬ ▬▬▬ ▬▬▬▬ ▬▬ ▬ ▬▬▬ ▬▬ ▬▬ ▬▬▬ ▬ ▬▬▬▬ ▬▬ ▬▬▬ ▬▬ ▬ ▬▬▬ ▬▬▬▬ ▬▬ ▬ ▬▬▬ ▬▬ ▬▬ ▬▬▬ ▬ ▬▬▬▬ ▬▬ ▬▬▬ ▬▬ ▬ ▬▬▬ ▬▬▬▬ ▬▬ ▬ ▬▬▬ ▬▬ ▬▬ ▬▬▬ ▬ ▬▬▬▬ ▬▬ ▬▬▬ ▬▬ ▬ ▬▬▬ ▬▬▬▬ ▬▬ ▬ ▬▬▬ ▬▬ ▬▬ ▬▬▬ ▬ ▬▬▬▬ ▬▬ ▬▬▬ ▬▬ ▬ ▬▬▬ ▬▬▬▬ ▬▬ ▬ ▬▬▬ ▬▬ ▬▬ ▬▬▬ ▬ ▬▬▬▬ ▬▬ ▬▬▬ ▬▬ ▬ ▬▬▬ ▬▬▬▬ ▬▬ ▬ ▬▬▬ ▬▬ ▬▬ ▬▬▬ ▬ ▬▬▬▬ ▬▬ ▬▬▬ ▬▬ ▬ ▬▬▬ ▬▬▬▬ ▬▬ ▬ ▬▬▬ ▬▬ ▬▬ ▬▬▬ ▬ ▬▬▬▬ ▬▬ ▬▬▬ ▬▬ ▬ ▬▬▬ ▬▬▬▬ ▬▬ ▬ ▬▬▬ ▬▬ ▬▬ ▬▬▬ ▬ ▬▬▬▬ ▬▬ ▬▬▬ ▬▬ ▬ ▬▬▬ ▬▬▬▬ ▬▬ ▬ ▬▬▬ ▬▬ ▬▬ ▬▬▬ ▬ ▬▬▬▬ ▬▬ ▬▬▬ ▬▬ ▬ ▬▬▬ ▬▬▬▬ ▬▬ ▬ ▬▬▬ ▬▬
कार्यक्रम में उपस्थित राजपूत महासभा पुरस्कार के पदाधिकारीगण।
▬▬ ▬▬▬ ▬ ▬▬▬▬ ▬▬ ▬▬▬ ▬▬ ▬ ▬▬▬ ▬▬▬▬ ▬▬ ▬ ▬▬▬ ▬▬ ▬▬ ▬▬▬ ▬ ▬▬▬▬ ▬▬ ▬▬▬ ▬▬ ▬ ▬▬▬ ▬▬▬▬ ▬▬ ▬ ▬▬▬ ▬▬ ▬▬ ▬▬▬ ▬ ▬▬▬▬ ▬▬ ▬▬▬ ▬▬ ▬ ▬▬▬ ▬▬▬▬ ▬▬ ▬ ▬▬▬ ▬▬ ▬▬ ▬▬▬ ▬ ▬▬▬▬ ▬▬ ▬▬▬ ▬▬ ▬ ▬▬▬ ▬▬▬▬ ▬▬ ▬ ▬▬▬ ▬▬ ▬▬ ▬▬▬ ▬ ▬▬▬▬ ▬▬ ▬▬▬ ▬▬ ▬ ▬▬▬ ▬▬▬▬ ▬▬ ▬ ▬▬▬ ▬▬ ▬▬ ▬▬▬ ▬ ▬▬▬▬ ▬▬ ▬▬▬ ▬▬ ▬ ▬▬▬ ▬▬▬▬ ▬▬ ▬ ▬▬▬ ▬▬ ▬▬ ▬▬▬ ▬ ▬▬▬▬ ▬▬ ▬▬▬ ▬▬ ▬ ▬▬▬ ▬▬▬▬ ▬▬ ▬ ▬▬▬ ▬▬ ▬▬ ▬▬▬ ▬ ▬▬▬▬ ▬▬ ▬▬▬ ▬▬ ▬ ▬▬▬ ▬▬▬▬ ▬▬ ▬ ▬▬▬ ▬▬ ▬▬ ▬▬▬ ▬ ▬▬▬▬ ▬▬ ▬▬▬ ▬▬ ▬ ▬▬▬ ▬▬▬▬ ▬▬ ▬ ▬▬▬ ▬▬ ▬▬ ▬▬▬ ▬ ▬▬▬▬ ▬▬ ▬▬▬ ▬▬ ▬ ▬▬▬ ▬▬▬▬ ▬▬ ▬ ▬▬▬ ▬▬ ▬▬ ▬▬▬ ▬ ▬▬▬▬ ▬▬ ▬▬▬ ▬▬ ▬ ▬▬▬ ▬▬▬▬ ▬▬ ▬ ▬▬▬ ▬▬ ▬▬ ▬▬▬ ▬ ▬▬▬▬ ▬▬ ▬▬▬ ▬▬ ▬ ▬▬▬ ▬▬▬▬ ▬▬ ▬ ▬▬▬ ▬▬ ▬▬ ▬▬▬ ▬ ▬▬▬▬ ▬▬ ▬▬▬ ▬▬ ▬ ▬▬▬ ▬▬▬▬ ▬▬ ▬ ▬▬▬ ▬▬ ▬▬ ▬▬▬ ▬ ▬▬▬▬ ▬▬ ▬▬▬ ▬▬ ▬ ▬▬▬ ▬▬▬▬ ▬▬ ▬ ▬▬▬ ▬▬ ▬▬ ▬▬▬ ▬ ▬▬▬▬ ▬▬ ▬▬▬ ▬▬ ▬ ▬▬▬ ▬▬▬▬ ▬▬ ▬ ▬▬▬ ▬▬ ▬▬ ▬▬▬ ▬ ▬▬▬▬ ▬▬ ▬▬▬ ▬▬ ▬ ▬▬▬ ▬▬▬▬ ▬▬ ▬ ▬▬▬ ▬▬ ▬▬ ▬▬▬ ▬ ▬▬▬▬ ▬▬ ▬▬▬ ▬▬ ▬ ▬▬▬ ▬▬▬▬ ▬▬ ▬ ▬▬▬ ▬▬ ▬▬ ▬▬▬ ▬ ▬▬▬▬ ▬▬ ▬▬▬ ▬▬ ▬ ▬▬▬ ▬▬▬▬ ▬▬ ▬ ▬▬▬ ▬▬ ▬▬ ▬▬▬ ▬ ▬▬▬▬ ▬▬ ▬▬▬ ▬▬ ▬ ▬▬▬ ▬▬▬▬ ▬▬ ▬ ▬▬▬ ▬▬ ▬▬ ▬▬▬ ▬ ▬▬▬▬ ▬▬ ▬▬▬ ▬▬ ▬ ▬▬▬ ▬▬▬▬ ▬▬ ▬ ▬▬▬ ▬▬ ▬▬ ▬▬▬ ▬ ▬▬▬▬ ▬▬ ▬▬▬ ▬▬ ▬ ▬▬▬ ▬▬▬▬ ▬▬ ▬ ▬▬▬ ▬▬ ▬▬ ▬▬▬ ▬ ▬▬▬▬ ▬▬ ▬▬▬ ▬▬ ▬ ▬▬▬ ▬▬▬▬ ▬▬ ▬ ▬▬▬ ▬▬ ▬▬ ▬▬▬ ▬ ▬▬▬▬ ▬▬ ▬▬▬ ▬▬ ▬ ▬▬▬ ▬▬▬▬ ▬▬ ▬ ▬▬▬ ▬▬ ▬▬ ▬▬▬ ▬ ▬▬▬▬ ▬▬ ▬▬▬ ▬▬ ▬ ▬▬▬ ▬▬▬▬ ▬▬ ▬ ▬▬▬ ▬▬ ▬▬ ▬▬▬ ▬ ▬▬▬▬ ▬▬ ▬▬▬ ▬▬ ▬ ▬▬▬ ▬▬▬▬ ▬▬ ▬ ▬▬▬ ▬▬ ▬▬ ▬▬▬ ▬ ▬▬▬▬ ▬▬ ▬▬▬ ▬▬ ▬ ▬▬▬ ▬▬▬▬ ▬▬ ▬ ▬▬▬ ▬▬ ▬▬ ▬▬▬ ▬ ▬▬▬▬ ▬▬ ▬▬▬ ▬▬ ▬ ▬▬▬ ▬▬▬▬ ▬▬ ▬ ▬▬▬ ▬▬ ▬▬ ▬▬▬ ▬ ▬▬▬▬ ▬▬ ▬▬▬ ▬▬ ▬ ▬▬▬ ▬▬▬▬ ▬▬ ▬ ▬▬▬ ▬▬ ▬▬ ▬▬▬ ▬ ▬▬▬▬ ▬▬ ▬▬▬ ▬▬ ▬ ▬▬▬ ▬▬▬▬ ▬▬ ▬ ▬▬▬ ▬▬ ▬▬ ▬▬▬ ▬ ▬▬▬▬ ▬▬ ▬▬▬ ▬▬ ▬ ▬▬▬ ▬▬▬▬ ▬▬ ▬ ▬▬▬ ▬▬ ▬▬ ▬▬▬ ▬ ▬▬▬▬ ▬▬ ▬▬▬ ▬▬ ▬ ▬▬▬ ▬▬▬▬ ▬▬ ▬ ▬▬▬ ▬▬ ▬▬ ▬▬▬ ▬ ▬▬▬▬ ▬▬ ▬▬▬ ▬▬ ▬ ▬▬▬ ▬▬▬▬ ▬▬ ▬ ▬▬▬ ▬▬ ▬▬ ▬▬▬ ▬ ▬▬▬▬ ▬▬ ▬▬▬ ▬▬ ▬ ▬▬▬ ▬▬▬▬ ▬▬ ▬ ▬▬▬ ▬▬ ▬▬ ▬▬▬ ▬ ▬▬▬▬ ▬▬ ▬▬▬ ▬▬ ▬ ▬▬▬ ▬▬▬▬ ▬▬ ▬ ▬▬▬ ▬▬ ▬▬ ▬▬▬ ▬ ▬▬▬▬ ▬▬ ▬▬▬ ▬▬ ▬ ▬▬▬ ▬▬▬▬ ▬▬ ▬ ▬▬▬ ▬▬ ▬▬ ▬▬▬ ▬ ▬▬▬▬ ▬▬ ▬▬▬ ▬▬ ▬ ▬▬▬ ▬▬▬▬ ▬▬ ▬ ▬▬▬ ▬▬ ▬▬ ▬▬▬ ▬ ▬▬▬▬ ▬▬ ▬▬▬ ▬▬ ▬ ▬▬▬ ▬▬▬▬ ▬▬ ▬ ▬▬▬ ▬▬ ▬▬ ▬▬▬ ▬ ▬▬▬▬ ▬▬ ▬▬▬ ▬▬ ▬ ▬▬▬ ▬▬▬▬ ▬▬ ▬ ▬▬▬ ▬▬ ▬▬ ▬▬▬ ▬ ▬▬▬▬ ▬▬ ▬▬▬ ▬▬ ▬ ▬▬▬ ▬▬▬▬ ▬▬ ▬ ▬▬▬ ▬▬ ▬▬ ▬▬▬ ▬ ▬▬▬▬ ▬▬ ▬▬▬ ▬▬ ▬ ▬▬▬ ▬▬▬▬ ▬▬ ▬ ▬▬▬ ▬▬ ▬▬ ▬▬▬ ▬ ▬▬▬▬ ▬▬ ▬▬▬ ▬▬ ▬ ▬▬▬ ▬▬▬▬ ▬▬ ▬ ▬▬▬ ▬▬ ▬▬ ▬▬▬ ▬ ▬▬▬▬ ▬▬ ▬▬▬ ▬▬ ▬ ▬▬▬ ▬▬▬▬ ▬▬ ▬ ▬▬▬ ▬▬ ▬▬ ▬▬▬ ▬ ▬▬▬▬ ▬▬ ▬▬▬ ▬▬ ▬ ▬▬▬ ▬▬▬▬ ▬▬ ▬ ▬▬▬ ▬▬ ▬▬ ▬▬▬ ▬ ▬▬▬▬ ▬▬ ▬▬▬ ▬▬ ▬ ▬▬▬ ▬▬▬▬ ▬▬ ▬ ▬▬▬ ▬▬ ▬▬ ▬▬▬ ▬ ▬▬▬▬ ▬▬ ▬▬▬ ▬▬ ▬ ▬▬▬ ▬▬▬▬ ▬▬ ▬ ▬▬▬ ▬▬ ▬▬ ▬▬▬ ▬ ▬▬▬▬ ▬▬ ▬▬▬ ▬▬ ▬ ▬▬▬ ▬▬▬▬ ▬▬ ▬ ▬▬▬ ▬▬ ▬▬ ▬▬▬ ▬ ▬▬▬▬ ▬▬ ▬▬▬ ▬▬ ▬ ▬▬▬ ▬▬▬▬ ▬▬ ▬ ▬▬▬ ▬▬ ▬▬ ▬▬▬ ▬ ▬▬▬▬ ▬▬ ▬▬▬ ▬▬ ▬ ▬▬▬ ▬▬▬▬ ▬▬ ▬ ▬▬▬ ▬▬ ▬▬ ▬▬▬ ▬ ▬▬▬▬ ▬▬ ▬▬▬ ▬▬ ▬ ▬▬▬ ▬▬▬▬ ▬▬ ▬ ▬▬▬ ▬▬ ▬▬ ▬▬▬ ▬ ▬▬▬▬ ▬▬ ▬▬▬ ▬▬ ▬ ▬▬▬ ▬▬▬▬ ▬▬ ▬ ▬▬▬ ▬▬ ▬▬ ▬▬▬ ▬ ▬▬▬▬ ▬▬ ▬▬▬ ▬▬ ▬ ▬▬▬ ▬▬▬▬ ▬▬ ▬ ▬▬▬ ▬▬ ▬▬ ▬▬▬ ▬ ▬▬▬▬ ▬▬ ▬▬▬ ▬▬ ▬ ▬▬▬ ▬▬▬▬ ▬▬ ▬ ▬▬▬ ▬▬ ▬▬ ▬▬▬ ▬ ▬▬▬▬ ▬▬ ▬▬▬ ▬▬ ▬ ▬▬▬ ▬▬▬▬ ▬▬ ▬ ▬▬▬ ▬▬ ▬▬ ▬▬▬ ▬ ▬▬▬▬ ▬▬ ▬▬▬ ▬▬ ▬ ▬▬▬ ▬▬▬▬ ▬▬ ▬ ▬▬▬ ▬▬ ▬▬ ▬▬▬ ▬ ▬▬▬▬ ▬▬ ▬▬▬ ▬▬ ▬ ▬▬▬ ▬▬▬▬ ▬▬ ▬ ▬▬▬ ▬▬ ▬▬ ▬▬▬ ▬ ▬▬▬▬ ▬▬ ▬▬▬ ▬▬ ▬ ▬▬▬ ▬▬▬▬ ▬▬ ▬ ▬▬▬ ▬▬ ▬▬ ▬▬▬ ▬ ▬▬▬▬ ▬▬ ▬▬▬ ▬▬ ▬ ▬▬▬ ▬▬▬▬ ▬▬ ▬ ▬▬▬ ▬▬ ▬▬ ▬▬▬ ▬ ▬▬▬▬ ▬▬ ▬▬▬ ▬▬ ▬ ▬▬▬ ▬▬▬▬ ▬▬ ▬ ▬▬▬ ▬▬ ▬▬ ▬▬▬ ▬ ▬▬▬▬ ▬▬ ▬▬▬ ▬▬ ▬ ▬▬▬ ▬▬▬▬ ▬▬ ▬ ▬▬▬ ▬▬ ▬▬ ▬▬▬ ▬ ▬▬▬▬ ▬▬ ▬▬▬ ▬▬ ▬ ▬▬▬ ▬▬▬▬ ▬▬ ▬ ▬▬▬ ▬▬
▬▬ ▬▬▬ ▬ ▬▬▬▬ ▬▬ ▬▬▬ ▬▬ ▬ ▬▬▬ ▬▬▬▬ ▬▬ ▬ ▬▬▬ ▬▬ ▬▬ ▬▬▬ ▬ ▬▬▬▬ ▬▬ ▬▬▬ ▬▬ ▬ ▬▬▬ ▬▬▬▬ ▬▬ ▬ ▬▬▬ ▬▬ ▬▬ ▬▬▬ ▬ ▬▬▬▬ ▬▬ ▬▬▬ ▬▬ ▬ ▬▬▬ ▬▬▬▬ ▬▬ ▬ ▬▬▬ ▬▬ ▬▬ ▬▬▬ ▬ ▬▬▬▬ ▬▬ ▬▬▬ ▬▬ ▬ ▬▬▬ ▬▬▬▬ ▬▬ ▬ ▬▬▬ ▬▬ ▬▬ ▬▬▬ ▬ ▬▬▬▬ ▬▬ ▬▬▬ ▬▬ ▬ ▬▬▬ ▬▬▬▬ ▬▬ ▬ ▬▬▬ ▬▬ ▬▬ ▬▬▬ ▬ ▬▬▬▬ ▬▬ ▬▬▬ ▬▬ ▬ ▬▬▬ ▬▬▬▬ ▬▬ ▬ ▬▬▬ ▬▬ ▬▬ ▬▬▬ ▬ ▬▬▬▬ ▬▬ ▬▬▬ ▬▬ ▬ ▬▬▬ ▬▬▬▬ ▬▬ ▬ ▬▬▬ ▬▬ ▬▬ ▬▬▬ ▬ ▬▬▬▬ ▬▬ ▬▬▬ ▬▬ ▬ ▬▬▬ ▬▬▬▬ ▬▬ ▬ ▬▬▬ ▬▬ ▬▬ ▬▬▬ ▬ ▬▬▬▬ ▬▬ ▬▬▬ ▬▬ ▬ ▬▬▬ ▬▬▬▬ ▬▬ ▬ ▬▬▬ ▬▬ ▬▬ ▬▬▬ ▬ ▬▬▬▬ ▬▬ ▬▬▬ ▬▬ ▬ ▬▬▬ ▬▬▬▬ ▬▬ ▬ ▬▬▬ ▬▬ ▬▬ ▬▬▬ ▬ ▬▬▬▬ ▬▬ ▬▬▬ ▬▬ ▬ ▬▬▬ ▬▬▬▬ ▬▬ ▬ ▬▬▬ ▬▬ ▬▬ ▬▬▬ ▬ ▬▬▬▬ ▬▬ ▬▬▬ ▬▬ ▬ ▬▬▬ ▬▬▬▬ ▬▬ ▬ ▬▬▬ ▬▬ ▬▬ ▬▬▬ ▬ ▬▬▬▬ ▬▬ ▬▬▬ ▬▬ ▬ ▬▬▬ ▬▬▬▬ ▬▬ ▬ ▬▬▬ ▬▬ ▬▬ ▬▬▬ ▬ ▬▬▬▬ ▬▬ ▬▬▬ ▬▬ ▬ ▬▬▬ ▬▬▬▬ ▬▬ ▬ ▬▬▬ ▬▬ ▬▬ ▬▬▬ ▬ ▬▬▬▬ ▬▬ ▬▬▬ ▬▬ ▬ ▬▬▬ ▬▬▬▬ ▬▬ ▬ ▬▬▬ ▬▬ ▬▬ ▬▬▬ ▬ ▬▬▬▬ ▬▬ ▬▬▬ ▬▬ ▬ ▬▬▬ ▬▬▬▬ ▬▬ ▬ ▬▬▬ ▬▬ ▬▬ ▬▬▬ ▬ ▬▬▬▬ ▬▬ ▬▬▬ ▬▬ ▬ ▬▬▬ ▬▬▬▬ ▬▬ ▬ ▬▬▬ ▬▬ ▬▬ ▬▬▬ ▬ ▬▬▬▬ ▬▬ ▬▬▬ ▬▬ ▬ ▬▬▬ ▬▬▬▬ ▬▬ ▬ ▬▬▬ ▬▬ ▬▬ ▬▬▬ ▬ ▬▬▬▬ ▬▬ ▬▬▬ ▬▬ ▬ ▬▬▬ ▬▬▬▬ ▬▬ ▬ ▬▬▬ ▬▬ ▬▬ ▬▬▬ ▬ ▬▬▬▬ ▬▬ ▬▬▬ ▬▬ ▬ ▬▬▬ ▬▬▬▬ ▬▬ ▬ ▬▬▬ ▬▬ ▬▬ ▬▬▬ ▬ ▬▬▬▬ ▬▬ ▬▬▬ ▬▬ ▬ ▬▬▬ ▬▬▬▬ ▬▬ ▬ ▬▬▬ ▬▬ ▬▬ ▬▬▬ ▬ ▬▬▬▬ ▬▬ ▬▬▬ ▬▬ ▬ ▬▬▬ ▬▬▬▬ ▬▬ ▬ ▬▬▬ ▬▬ ▬▬ ▬▬▬ ▬ ▬▬▬▬ ▬▬ ▬▬▬ ▬▬ ▬ ▬▬▬ ▬▬▬▬ ▬▬ ▬ ▬▬▬ ▬▬ ▬▬ ▬▬▬ ▬ ▬▬▬▬ ▬▬ ▬▬▬ ▬▬ ▬ ▬▬▬ ▬▬▬▬ ▬▬ ▬ ▬▬▬ ▬▬ ▬▬ ▬▬▬ ▬ ▬▬▬▬ ▬▬ ▬▬▬ ▬▬ ▬ ▬▬▬ ▬▬▬▬ ▬▬ ▬ ▬▬▬ ▬▬ ▬▬ ▬▬▬ ▬ ▬▬▬▬ ▬▬ ▬▬▬ ▬▬ ▬ ▬▬▬ ▬▬▬▬ ▬▬ ▬ ▬▬▬ ▬▬ ▬▬ ▬▬▬ ▬ ▬▬▬▬ ▬▬ ▬▬▬ ▬▬ ▬ ▬▬▬ ▬▬▬▬ ▬▬ ▬ ▬▬▬ ▬▬ ▬▬ ▬▬▬ ▬ ▬▬▬▬ ▬▬ ▬▬▬ ▬▬ ▬ ▬▬▬ ▬▬▬▬ ▬▬ ▬ ▬▬▬ ▬▬ ▬▬ ▬▬▬ ▬ ▬▬▬▬ ▬▬ ▬▬▬ ▬▬ ▬ ▬▬▬ ▬▬▬▬ ▬▬ ▬ ▬▬▬ ▬▬ ▬▬ ▬▬▬ ▬ ▬▬▬▬ ▬▬ ▬▬▬ ▬▬ ▬ ▬▬▬ ▬▬▬▬ ▬▬ ▬ ▬▬▬ ▬▬ ▬▬ ▬▬▬ ▬ ▬▬▬▬ ▬▬ ▬▬▬ ▬▬ ▬ ▬▬▬ ▬▬▬▬ ▬▬ ▬ ▬▬▬ ▬▬ ▬▬ ▬▬▬ ▬ ▬▬▬▬ ▬▬ ▬▬▬ ▬▬ ▬ ▬▬▬ ▬▬▬▬ ▬▬ ▬ ▬▬▬ ▬▬ ▬▬ ▬▬▬ ▬ ▬▬▬▬ ▬▬ ▬▬▬ ▬▬ ▬ ▬▬▬ ▬▬▬▬ ▬▬ ▬ ▬▬▬ ▬▬ ▬▬ ▬▬▬ ▬ ▬▬▬▬ ▬▬ ▬▬▬ ▬▬ ▬ ▬▬▬ ▬▬▬▬ ▬▬ ▬ ▬▬▬ ▬▬ ▬▬ ▬▬▬ ▬ ▬▬▬▬ ▬▬ ▬▬▬ ▬▬ ▬ ▬▬▬ ▬▬▬▬ ▬▬ ▬ ▬▬▬ ▬▬ ▬▬ ▬▬▬ ▬ ▬▬▬▬ ▬▬ ▬▬▬ ▬▬ ▬ ▬▬▬ ▬▬▬▬ ▬▬ ▬ ▬▬▬ ▬▬ ▬▬ ▬▬▬ ▬ ▬▬▬▬ ▬▬ ▬▬▬ ▬▬ ▬ ▬▬▬ ▬▬▬▬ ▬▬ ▬ ▬▬▬ ▬▬ ▬▬ ▬▬▬ ▬ ▬▬▬▬ ▬▬ ▬▬▬ ▬▬ ▬ ▬▬▬ ▬▬▬▬ ▬▬ ▬ ▬▬▬ ▬▬ ▬▬ ▬▬▬ ▬ ▬▬▬▬ ▬▬ ▬▬▬ ▬▬ ▬ ▬▬▬ ▬▬▬▬ ▬▬ ▬ ▬▬▬ ▬▬ ▬▬ ▬▬▬ ▬ ▬▬▬▬ ▬▬ ▬▬▬ ▬▬ ▬ ▬▬▬ ▬▬▬▬ ▬▬ ▬ ▬▬▬ ▬▬ ▬▬ ▬▬▬ ▬ ▬▬▬▬ ▬▬ ▬▬▬ ▬▬ ▬ ▬▬▬ ▬▬▬▬ ▬▬ ▬ ▬▬▬ ▬▬ ▬▬ ▬▬▬ ▬ ▬▬▬▬ ▬▬ ▬▬▬ ▬▬ ▬ ▬▬▬ ▬▬▬▬ ▬▬ ▬ ▬▬▬ ▬▬ ▬▬ ▬▬▬ ▬ ▬▬▬▬ ▬▬ ▬▬▬ ▬▬ ▬ ▬▬▬ ▬▬▬▬ ▬▬ ▬ ▬▬▬ ▬▬ ▬▬ ▬▬▬ ▬ ▬▬▬▬ ▬▬ ▬▬▬ ▬▬ ▬ ▬▬▬ ▬▬▬▬ ▬▬ ▬ ▬▬▬ ▬▬ ▬▬ ▬▬▬ ▬ ▬▬▬▬ ▬▬ ▬▬▬ ▬▬ ▬ ▬▬▬ ▬▬▬▬ ▬▬ ▬ ▬▬▬ ▬▬ ▬▬ ▬▬▬ ▬ ▬▬▬▬ ▬▬ ▬▬▬ ▬▬ ▬ ▬▬▬ ▬▬▬▬ ▬▬ ▬ ▬▬▬ ▬▬ ▬▬ ▬▬▬ ▬ ▬▬▬▬ ▬▬ ▬▬▬ ▬▬ ▬ ▬▬▬ ▬▬▬▬ ▬▬ ▬ ▬▬▬ ▬▬ ▬▬ ▬▬▬ ▬ ▬▬▬▬ ▬▬ ▬▬▬ ▬▬ ▬ ▬▬▬ ▬▬▬▬ ▬▬ ▬ ▬▬▬ ▬▬ ▬▬ ▬▬▬ ▬ ▬▬▬▬ ▬▬ ▬▬▬ ▬▬ ▬ ▬▬▬ ▬▬▬▬ ▬▬ ▬ ▬▬▬ ▬▬ ▬▬ ▬▬▬ ▬ ▬▬▬▬ ▬▬ ▬▬▬ ▬▬ ▬ ▬▬▬ ▬▬▬▬ ▬▬ ▬ ▬▬▬ ▬▬ ▬▬ ▬▬▬ ▬ ▬▬▬▬ ▬▬ ▬▬▬ ▬▬ ▬ ▬▬▬ ▬▬▬▬ ▬▬ ▬ ▬▬▬ ▬▬ ▬▬ ▬▬▬ ▬ ▬▬▬▬ ▬▬ ▬▬▬ ▬▬ ▬ ▬▬▬ ▬▬▬▬ ▬▬ ▬ ▬▬▬ ▬▬ ▬▬ ▬▬▬ ▬ ▬▬▬▬ ▬▬ ▬▬▬ ▬▬ ▬ ▬▬▬ ▬▬▬▬ ▬▬ ▬ ▬▬▬ ▬▬ ▬▬ ▬▬▬ ▬ ▬▬▬▬ ▬▬ ▬▬▬ ▬▬ ▬ ▬▬▬ ▬▬▬▬ ▬▬ ▬ ▬▬▬ ▬▬ ▬▬ ▬▬▬ ▬ ▬▬▬▬ ▬▬ ▬▬▬ ▬▬ ▬ ▬▬▬ ▬▬▬▬ ▬▬ ▬ ▬▬▬ ▬▬ ▬▬ ▬▬▬ ▬ ▬▬▬▬ ▬▬ ▬▬▬ ▬▬ ▬ ▬▬▬ ▬▬▬▬ ▬▬ ▬ ▬▬▬ ▬▬ ▬▬ ▬▬▬ ▬ ▬▬▬▬ ▬▬ ▬▬▬ ▬▬ ▬ ▬▬▬ ▬▬▬▬ ▬▬ ▬ ▬▬▬ ▬▬ ▬▬ ▬▬▬ ▬ ▬▬▬▬ ▬▬ ▬▬▬ ▬▬ ▬ ▬▬▬ ▬▬▬▬ ▬▬ ▬ ▬▬▬ ▬▬ ▬▬ ▬▬▬ ▬ ▬▬▬▬ ▬▬ ▬▬▬ ▬▬ ▬ ▬▬▬ ▬▬▬▬ ▬▬ ▬ ▬▬▬ ▬▬ ▬▬ ▬▬▬ ▬ ▬▬▬▬ ▬▬ ▬▬▬ ▬▬ ▬ ▬▬▬ ▬▬▬▬ ▬▬ ▬ ▬▬▬ ▬▬
▬▬ ▬▬▬ ▬ ▬▬▬▬ ▬▬ ▬▬▬ ▬▬ ▬ ▬▬▬ ▬▬▬▬ ▬▬ ▬ ▬▬▬ ▬▬ ▬▬ ▬▬▬ ▬ ▬▬▬▬ ▬▬ ▬▬▬ ▬▬ ▬ ▬▬▬ ▬▬▬▬ ▬▬ ▬ ▬▬▬ ▬▬ ▬▬ ▬▬▬ ▬ ▬▬▬▬ ▬▬ ▬▬▬ ▬▬ ▬ ▬▬▬ ▬▬▬▬ ▬▬ ▬ ▬▬▬ ▬▬ ▬▬ ▬▬▬ ▬ ▬▬▬▬ ▬▬ ▬▬▬ ▬▬ ▬ ▬▬▬ ▬▬▬▬ ▬▬ ▬ ▬▬▬ ▬▬ ▬▬ ▬▬▬ ▬ ▬▬▬▬ ▬▬ ▬▬▬ ▬▬ ▬ ▬▬▬ ▬▬▬▬ ▬▬ ▬ ▬▬▬ ▬▬ ▬▬ ▬▬▬ ▬ ▬▬▬▬ ▬▬ ▬▬▬ ▬▬ ▬ ▬▬▬ ▬▬▬▬ ▬▬ ▬ ▬▬▬ ▬▬ ▬▬ ▬▬▬ ▬ ▬▬▬▬ ▬▬ ▬▬▬ ▬▬ ▬ ▬▬▬ ▬▬▬▬ ▬▬ ▬ ▬▬▬ ▬▬ ▬▬ ▬▬▬ ▬ ▬▬▬▬ ▬▬ ▬▬▬ ▬▬ ▬ ▬▬▬ ▬▬▬▬ ▬▬ ▬ ▬▬▬ ▬▬ ▬▬ ▬▬▬ ▬ ▬▬▬▬ ▬▬ ▬▬▬ ▬▬ ▬ ▬▬▬ ▬▬▬▬ ▬▬ ▬ ▬▬▬ ▬▬ ▬▬ ▬▬▬ ▬ ▬▬▬▬ ▬▬ ▬▬▬ ▬▬ ▬ ▬▬▬ ▬▬▬▬ ▬▬ ▬ ▬▬▬ ▬▬ ▬▬ ▬▬▬ ▬ ▬▬▬▬ ▬▬ ▬▬▬ ▬▬ ▬ ▬▬▬ ▬▬▬▬ ▬▬ ▬ ▬▬▬ ▬▬ ▬▬ ▬▬▬ ▬ ▬▬▬▬ ▬▬ ▬▬▬ ▬▬ ▬ ▬▬▬ ▬▬▬▬ ▬▬ ▬ ▬▬▬ ▬▬ ▬▬ ▬▬▬ ▬ ▬▬▬▬ ▬▬ ▬▬▬ ▬▬ ▬ ▬▬▬ ▬▬▬▬ ▬▬ ▬ ▬▬▬ ▬▬ ▬▬ ▬▬▬ ▬ ▬▬▬▬ ▬▬ ▬▬▬ ▬▬ ▬ ▬▬▬ ▬▬▬▬ ▬▬ ▬ ▬▬▬ ▬▬ ▬▬ ▬▬▬ ▬ ▬▬▬▬ ▬▬ ▬▬▬ ▬▬ ▬ ▬▬▬ ▬▬▬▬ ▬▬ ▬ ▬▬▬ ▬▬ ▬▬ ▬▬▬ ▬ ▬▬▬▬ ▬▬ ▬▬▬ ▬▬ ▬ ▬▬▬ ▬▬▬▬ ▬▬ ▬ ▬▬▬ ▬▬ ▬▬ ▬▬▬ ▬ ▬▬▬▬ ▬▬ ▬▬▬ ▬▬ ▬ ▬▬▬ ▬▬▬▬ ▬▬ ▬ ▬▬▬ ▬▬ ▬▬ ▬▬▬ ▬ ▬▬▬▬ ▬▬ ▬▬▬ ▬▬ ▬ ▬▬▬ ▬▬▬▬ ▬▬ ▬ ▬▬▬ ▬▬ ▬▬ ▬▬▬ ▬ ▬▬▬▬ ▬▬ ▬▬▬ ▬▬ ▬ ▬▬▬ ▬▬▬▬ ▬▬ ▬ ▬▬▬ ▬▬ ▬▬ ▬▬▬ ▬ ▬▬▬▬ ▬▬ ▬▬▬ ▬▬ ▬ ▬▬▬ ▬▬▬▬ ▬▬ ▬ ▬▬▬ ▬▬ ▬▬ ▬▬▬ ▬ ▬▬▬▬ ▬▬ ▬▬▬ ▬▬ ▬ ▬▬▬ ▬▬▬▬ ▬▬ ▬ ▬▬▬ ▬▬ ▬▬ ▬▬▬ ▬ ▬▬▬▬ ▬▬ ▬▬▬ ▬▬ ▬ ▬▬▬ ▬▬▬▬ ▬▬ ▬ ▬▬▬ ▬▬ ▬▬ ▬▬▬ ▬ ▬▬▬▬ ▬▬ ▬▬▬ ▬▬ ▬ ▬▬▬ ▬▬▬▬ ▬▬ ▬ ▬▬▬ ▬▬ ▬▬ ▬▬▬ ▬ ▬▬▬▬ ▬▬ ▬▬▬ ▬▬ ▬ ▬▬▬ ▬▬▬▬ ▬▬ ▬ ▬▬▬ ▬▬ ▬▬ ▬▬▬ ▬ ▬▬▬▬ ▬▬ ▬▬▬ ▬▬ ▬ ▬▬▬ ▬▬▬▬ ▬▬ ▬ ▬▬▬ ▬▬ ▬▬ ▬▬▬ ▬ ▬▬▬▬ ▬▬ ▬▬▬ ▬▬ ▬ ▬▬▬ ▬▬▬▬ ▬▬ ▬ ▬▬▬ ▬▬ ▬▬ ▬▬▬ ▬ ▬▬▬▬ ▬▬ ▬▬▬ ▬▬ ▬ ▬▬▬ ▬▬▬▬ ▬▬ ▬ ▬▬▬ ▬▬ ▬▬ ▬▬▬ ▬ ▬▬▬▬ ▬▬ ▬▬▬ ▬▬ ▬ ▬▬▬ ▬▬▬▬ ▬▬ ▬ ▬▬▬ ▬▬ ▬▬ ▬▬▬ ▬ ▬▬▬▬ ▬▬ ▬▬▬ ▬▬ ▬ ▬▬▬ ▬▬▬▬ ▬▬ ▬ ▬▬▬ ▬▬ ▬▬ ▬▬▬ ▬ ▬▬▬▬ ▬▬ ▬▬▬ ▬▬ ▬ ▬▬▬ ▬▬▬▬ ▬▬ ▬ ▬▬▬ ▬▬ ▬▬ ▬▬▬ ▬ ▬▬▬▬ ▬▬ ▬▬▬ ▬▬ ▬ ▬▬▬ ▬▬▬▬ ▬▬ ▬ ▬▬▬ ▬▬ ▬▬ ▬▬▬ ▬ ▬▬▬▬ ▬▬ ▬▬▬ ▬▬ ▬ ▬▬▬ ▬▬▬▬ ▬▬ ▬ ▬▬▬ ▬▬ ▬▬ ▬▬▬ ▬ ▬▬▬▬ ▬▬ ▬▬▬ ▬▬ ▬ ▬▬▬ ▬▬▬▬ ▬▬ ▬ ▬▬▬ ▬▬ ▬▬ ▬▬▬ ▬ ▬▬▬▬ ▬▬ ▬▬▬ ▬▬ ▬ ▬▬▬ ▬▬▬▬ ▬▬ ▬ ▬▬▬ ▬▬ ▬▬ ▬▬▬ ▬ ▬▬▬▬ ▬▬ ▬▬▬ ▬▬ ▬ ▬▬▬ ▬▬▬▬ ▬▬ ▬ ▬▬▬ ▬▬ ▬▬ ▬▬▬ ▬ ▬▬▬▬ ▬▬ ▬▬▬ ▬▬ ▬ ▬▬▬ ▬▬▬▬ ▬▬ ▬ ▬▬▬ ▬▬ ▬▬ ▬▬▬ ▬ ▬▬▬▬ ▬▬ ▬▬▬ ▬▬ ▬ ▬▬▬ ▬▬▬▬ ▬▬ ▬ ▬▬▬ ▬▬ ▬▬ ▬▬▬ ▬ ▬▬▬▬ ▬▬ ▬▬▬ ▬▬ ▬ ▬▬▬ ▬▬▬▬ ▬▬ ▬ ▬▬▬ ▬▬ ▬▬ ▬▬▬ ▬ ▬▬▬▬ ▬▬ ▬▬▬ ▬▬ ▬ ▬▬▬ ▬▬▬▬ ▬▬ ▬ ▬▬▬ ▬▬ ▬▬ ▬▬▬ ▬ ▬▬▬▬ ▬▬ ▬▬▬ ▬▬ ▬ ▬▬▬ ▬▬▬▬ ▬▬ ▬ ▬▬▬ ▬▬ ▬▬ ▬▬▬ ▬ ▬▬▬▬ ▬▬ ▬▬▬ ▬▬ ▬ ▬▬▬ ▬▬▬▬ ▬▬ ▬ ▬▬▬ ▬▬ ▬▬ ▬▬▬ ▬ ▬▬▬▬ ▬▬ ▬▬▬ ▬▬ ▬ ▬▬▬ ▬▬▬▬ ▬▬ ▬ ▬▬▬ ▬▬ ▬▬ ▬▬▬ ▬ ▬▬▬▬ ▬▬ ▬▬▬ ▬▬ ▬ ▬▬▬ ▬▬▬▬ ▬▬ ▬ ▬▬▬ ▬▬ ▬▬ ▬▬▬ ▬ ▬▬▬▬ ▬▬ ▬▬▬ ▬▬ ▬ ▬▬▬ ▬▬▬▬ ▬▬ ▬ ▬▬▬ ▬▬ ▬▬ ▬▬▬ ▬ ▬▬▬▬ ▬▬ ▬▬▬ ▬▬ ▬ ▬▬▬ ▬▬▬▬ ▬▬ ▬ ▬▬▬ ▬▬ ▬▬ ▬▬▬ ▬ ▬▬▬▬ ▬▬ ▬▬▬ ▬▬ ▬ ▬▬▬ ▬▬▬▬ ▬▬ ▬ ▬▬▬ ▬▬ ▬▬ ▬▬▬ ▬ ▬▬▬▬ ▬▬ ▬▬▬ ▬▬ ▬ ▬▬▬ ▬▬▬▬ ▬▬ ▬ ▬▬▬ ▬▬ ▬▬ ▬▬▬ ▬ ▬▬▬▬ ▬▬ ▬▬▬ ▬▬ ▬ ▬▬▬ ▬▬▬▬ ▬▬ ▬ ▬▬▬ ▬▬ ▬▬ ▬▬▬ ▬ ▬▬▬▬ ▬▬ ▬▬▬ ▬▬ ▬ ▬▬▬ ▬▬▬▬ ▬▬ ▬ ▬▬▬ ▬▬ ▬▬ ▬▬▬ ▬ ▬▬▬▬ ▬▬ ▬▬▬ ▬▬ ▬ ▬▬▬ ▬▬▬▬ ▬▬ ▬ ▬▬▬ ▬▬ ▬▬ ▬▬▬ ▬ ▬▬▬▬ ▬▬ ▬▬▬ ▬▬ ▬ ▬▬▬ ▬▬▬▬ ▬▬ ▬ ▬▬▬ ▬▬ ▬▬ ▬▬▬ ▬ ▬▬▬▬ ▬▬ ▬▬▬ ▬▬ ▬ ▬▬▬ ▬▬▬▬ ▬▬ ▬ ▬▬▬ ▬▬ ▬▬ ▬▬▬ ▬ ▬▬▬▬ ▬▬ ▬▬▬ ▬▬ ▬ ▬▬▬ ▬▬▬▬ ▬▬ ▬ ▬▬▬ ▬▬ ▬▬ ▬▬▬ ▬ ▬▬▬▬ ▬▬ ▬▬▬ ▬▬ ▬ ▬▬▬ ▬▬▬▬ ▬▬ ▬ ▬▬▬ ▬▬ ▬▬ ▬▬▬ ▬ ▬▬▬▬ ▬▬ ▬▬▬ ▬▬ ▬ ▬▬▬ ▬▬▬▬ ▬▬ ▬ ▬▬▬ ▬▬ ▬▬ ▬▬▬ ▬ ▬▬▬▬ ▬▬ ▬▬▬ ▬▬ ▬ ▬▬▬ ▬▬▬▬ ▬▬ ▬ ▬▬▬ ▬▬ ▬▬ ▬▬▬ ▬ ▬▬▬▬ ▬▬ ▬▬▬ ▬▬ ▬ ▬▬▬ ▬▬▬▬ ▬▬ ▬ ▬▬▬ ▬▬ ▬▬ ▬▬▬ ▬ ▬▬▬▬ ▬▬ ▬▬▬ ▬▬ ▬ ▬▬▬ ▬▬▬▬ ▬▬ ▬ ▬▬▬ ▬▬ ▬▬ ▬▬▬ ▬ ▬▬▬▬ ▬▬ ▬▬▬ ▬▬ ▬ ▬▬▬ ▬▬▬▬ ▬▬ ▬ ▬▬▬ ▬▬ ▬▬ ▬▬▬ ▬ ▬▬▬▬ ▬▬ ▬▬▬ ▬▬ ▬ ▬▬▬ ▬▬▬▬ ▬▬ ▬ ▬▬▬ ▬▬
▬▬ ▬▬▬ ▬ ▬▬▬▬ ▬▬ ▬▬▬ ▬▬ ▬ ▬▬▬ ▬▬▬▬ ▬▬ ▬ ▬▬▬ ▬▬ ▬▬ ▬▬▬ ▬ ▬▬▬▬ ▬▬ ▬▬▬ ▬▬ ▬ ▬▬▬ ▬▬▬▬ ▬▬ ▬ ▬▬▬ ▬▬ ▬▬ ▬▬▬ ▬ ▬▬▬▬ ▬▬ ▬▬▬ ▬▬ ▬ ▬▬▬ ▬▬▬▬ ▬▬ ▬ ▬▬▬ ▬▬ ▬▬ ▬▬▬ ▬ ▬▬▬▬ ▬▬ ▬▬▬ ▬▬ ▬ ▬▬▬ ▬▬▬▬ ▬▬ ▬ ▬▬▬ ▬▬ ▬▬ ▬▬▬ ▬ ▬▬▬▬ ▬▬ ▬▬▬ ▬▬ ▬ ▬▬▬ ▬▬▬▬ ▬▬ ▬ ▬▬▬ ▬▬ ▬▬ ▬▬▬ ▬ ▬▬▬▬ ▬▬ ▬▬▬ ▬▬ ▬ ▬▬▬ ▬▬▬▬ ▬▬ ▬ ▬▬▬ ▬▬ ▬▬ ▬▬▬ ▬ ▬▬▬▬ ▬▬ ▬▬▬ ▬▬ ▬ ▬▬▬ ▬▬▬▬ ▬▬ ▬ ▬▬▬ ▬▬ ▬▬ ▬▬▬ ▬ ▬▬▬▬ ▬▬ ▬▬▬ ▬▬ ▬ ▬▬▬ ▬▬▬▬ ▬▬ ▬ ▬▬▬ ▬▬ ▬▬ ▬▬▬ ▬ ▬▬▬▬ ▬▬ ▬▬▬ ▬▬ ▬ ▬▬▬ ▬▬▬▬ ▬▬ ▬ ▬▬▬ ▬▬ ▬▬ ▬▬▬ ▬ ▬▬▬▬ ▬▬ ▬▬▬ ▬▬ ▬ ▬▬▬ ▬▬▬▬ ▬▬ ▬ ▬▬▬ ▬▬ ▬▬ ▬▬▬ ▬ ▬▬▬▬ ▬▬ ▬▬▬ ▬▬ ▬ ▬▬▬ ▬▬▬▬ ▬▬ ▬ ▬▬▬ ▬▬ ▬▬ ▬▬▬ ▬ ▬▬▬▬ ▬▬ ▬▬▬ ▬▬ ▬ ▬▬▬ ▬▬▬▬ ▬▬ ▬ ▬▬▬ ▬▬ ▬▬ ▬▬▬ ▬ ▬▬▬▬ ▬▬ ▬▬▬ ▬▬ ▬ ▬▬▬ ▬▬▬▬ ▬▬ ▬ ▬▬▬ ▬▬ ▬▬ ▬▬▬ ▬ ▬▬▬▬ ▬▬ ▬▬▬ ▬▬ ▬ ▬▬▬ ▬▬▬▬ ▬▬ ▬ ▬▬▬ ▬▬ ▬▬ ▬▬▬ ▬ ▬▬▬▬ ▬▬ ▬▬▬ ▬▬ ▬ ▬▬▬ ▬▬▬▬ ▬▬ ▬ ▬▬▬ ▬▬ ▬▬ ▬▬▬ ▬ ▬▬▬▬ ▬▬ ▬▬▬ ▬▬ ▬ ▬▬▬ ▬▬▬▬ ▬▬ ▬ ▬▬▬ ▬▬ ▬▬ ▬▬▬ ▬ ▬▬▬▬ ▬▬ ▬▬▬ ▬▬ ▬ ▬▬▬ ▬▬▬▬ ▬▬ ▬ ▬▬▬ ▬▬ ▬▬ ▬▬▬ ▬ ▬▬▬▬ ▬▬ ▬▬▬ ▬▬ ▬ ▬▬▬ ▬▬▬▬ ▬▬ ▬ ▬▬▬ ▬▬ ▬▬ ▬▬▬ ▬ ▬▬▬▬ ▬▬ ▬▬▬ ▬▬ ▬ ▬▬▬ ▬▬▬▬ ▬▬ ▬ ▬▬▬ ▬▬ ▬▬ ▬▬▬ ▬ ▬▬▬▬ ▬▬ ▬▬▬ ▬▬ ▬ ▬▬▬ ▬▬▬▬ ▬▬ ▬ ▬▬▬ ▬▬ ▬▬ ▬▬▬ ▬ ▬▬▬▬ ▬▬ ▬▬▬ ▬▬ ▬ ▬▬▬ ▬▬▬▬ ▬▬ ▬ ▬▬▬ ▬▬ ▬▬ ▬▬▬ ▬ ▬▬▬▬ ▬▬ ▬▬▬ ▬▬ ▬ ▬▬▬ ▬▬▬▬ ▬▬ ▬ ▬▬▬ ▬▬ ▬▬ ▬▬▬ ▬ ▬▬▬▬ ▬▬ ▬▬▬ ▬▬ ▬ ▬▬▬ ▬▬▬▬ ▬▬ ▬ ▬▬▬ ▬▬ ▬▬ ▬▬▬ ▬ ▬▬▬▬ ▬▬ ▬▬▬ ▬▬ ▬ ▬▬▬ ▬▬▬▬ ▬▬ ▬ ▬▬▬ ▬▬ ▬▬ ▬▬▬ ▬ ▬▬▬▬ ▬▬ ▬▬▬ ▬▬ ▬ ▬▬▬ ▬▬▬▬ ▬▬ ▬ ▬▬▬ ▬▬ ▬▬ ▬▬▬ ▬ ▬▬▬▬ ▬▬ ▬▬▬ ▬▬ ▬ ▬▬▬ ▬▬▬▬ ▬▬ ▬ ▬▬▬ ▬▬ ▬▬ ▬▬▬ ▬ ▬▬▬▬ ▬▬ ▬▬▬ ▬▬ ▬ ▬▬▬ ▬▬▬▬ ▬▬ ▬ ▬▬▬ ▬▬ ▬▬ ▬▬▬ ▬ ▬▬▬▬ ▬▬ ▬▬▬ ▬▬ ▬ ▬▬▬ ▬▬▬▬ ▬▬ ▬ ▬▬▬ ▬▬ ▬▬ ▬▬▬ ▬ ▬▬▬▬ ▬▬ ▬▬▬ ▬▬ ▬ ▬▬▬ ▬▬▬▬ ▬▬ ▬ ▬▬▬ ▬▬ ▬▬ ▬▬▬ ▬ ▬▬▬▬ ▬▬ ▬▬▬ ▬▬ ▬ ▬▬▬ ▬▬▬▬ ▬▬ ▬ ▬▬▬ ▬▬ ▬▬ ▬▬▬ ▬ ▬▬▬▬ ▬▬ ▬▬▬ ▬▬ ▬ ▬▬▬ ▬▬▬▬ ▬▬ ▬ ▬▬▬ ▬▬ ▬▬ ▬▬▬ ▬ ▬▬▬▬ ▬▬ ▬▬▬ ▬▬ ▬ ▬▬▬ ▬▬▬▬ ▬▬ ▬ ▬▬▬ ▬▬ ▬▬ ▬▬▬ ▬ ▬▬▬▬ ▬▬ ▬▬▬ ▬▬ ▬ ▬▬▬ ▬▬▬▬ ▬▬ ▬ ▬▬▬ ▬▬ ▬▬ ▬▬▬ ▬ ▬▬▬▬ ▬▬ ▬▬▬ ▬▬ ▬ ▬▬▬ ▬▬▬▬ ▬▬ ▬ ▬▬▬ ▬▬ ▬▬ ▬▬▬ ▬ ▬▬▬▬ ▬▬ ▬▬▬ ▬▬ ▬ ▬▬▬ ▬▬▬▬ ▬▬ ▬ ▬▬▬ ▬▬ ▬▬ ▬▬▬ ▬ ▬▬▬▬ ▬▬ ▬▬▬ ▬▬ ▬ ▬▬▬ ▬▬▬▬ ▬▬ ▬ ▬▬▬ ▬▬ ▬▬ ▬▬▬ ▬ ▬▬▬▬ ▬▬ ▬▬▬ ▬▬ ▬ ▬▬▬ ▬▬▬▬ ▬▬ ▬ ▬▬▬ ▬▬ ▬▬ ▬▬▬ ▬ ▬▬▬▬ ▬▬ ▬▬▬ ▬▬ ▬ ▬▬▬ ▬▬▬▬ ▬▬ ▬ ▬▬▬ ▬▬ ▬▬ ▬▬▬ ▬ ▬▬▬▬ ▬▬ ▬▬▬ ▬▬ ▬ ▬▬▬ ▬▬▬▬ ▬▬ ▬ ▬▬▬ ▬▬ ▬▬ ▬▬▬ ▬ ▬▬▬▬ ▬▬ ▬▬▬ ▬▬ ▬ ▬▬▬ ▬▬▬▬ ▬▬ ▬ ▬▬▬ ▬▬ ▬▬ ▬▬▬ ▬ ▬▬▬▬ ▬▬ ▬▬▬ ▬▬ ▬ ▬▬▬ ▬▬▬▬ ▬▬ ▬ ▬▬▬ ▬▬ ▬▬ ▬▬▬ ▬ ▬▬▬▬ ▬▬ ▬▬▬ ▬▬ ▬ ▬▬▬ ▬▬▬▬ ▬▬ ▬ ▬▬▬ ▬▬ ▬▬ ▬▬▬ ▬ ▬▬▬▬ ▬▬ ▬▬▬ ▬▬ ▬ ▬▬▬ ▬▬▬▬ ▬▬ ▬ ▬▬▬ ▬▬ ▬▬ ▬▬▬ ▬ ▬▬▬▬ ▬▬ ▬▬▬ ▬▬ ▬ ▬▬▬ ▬▬▬▬ ▬▬ ▬ ▬▬▬ ▬▬ ▬▬ ▬▬▬ ▬ ▬▬▬▬ ▬▬ ▬▬▬ ▬▬ ▬ ▬▬▬ ▬▬▬▬ ▬▬ ▬ ▬▬▬ ▬▬ ▬▬ ▬▬▬ ▬ ▬▬▬▬ ▬▬ ▬▬▬ ▬▬ ▬ ▬▬▬ ▬▬▬▬ ▬▬ ▬ ▬▬▬ ▬▬ ▬▬ ▬▬▬ ▬ ▬▬▬▬ ▬▬ ▬▬▬ ▬▬ ▬ ▬▬▬ ▬▬▬▬ ▬▬ ▬ ▬▬▬ ▬▬ ▬▬ ▬▬▬ ▬ ▬▬▬▬ ▬▬ ▬▬▬ ▬▬ ▬ ▬▬▬ ▬▬▬▬ ▬▬ ▬ ▬▬▬ ▬▬ ▬▬ ▬▬▬ ▬ ▬▬▬▬ ▬▬ ▬▬▬ ▬▬ ▬ ▬▬▬ ▬▬▬▬ ▬▬ ▬ ▬▬▬ ▬▬ ▬▬ ▬▬▬ ▬ ▬▬▬▬ ▬▬ ▬▬▬ ▬▬ ▬ ▬▬▬ ▬▬▬▬ ▬▬ ▬ ▬▬▬ ▬▬ ▬▬ ▬▬▬ ▬ ▬▬▬▬ ▬▬ ▬▬▬ ▬▬ ▬ ▬▬▬ ▬▬▬▬ ▬▬ ▬ ▬▬▬ ▬▬ ▬▬ ▬▬▬ ▬ ▬▬▬▬ ▬▬ ▬▬▬ ▬▬ ▬ ▬▬▬ ▬▬▬▬ ▬▬ ▬ ▬▬▬ ▬▬ ▬▬ ▬▬▬ ▬ ▬▬▬▬ ▬▬ ▬▬▬ ▬▬ ▬ ▬▬▬ ▬▬▬▬ ▬▬ ▬ ▬▬▬ ▬▬ ▬▬ ▬▬▬ ▬ ▬▬▬▬ ▬▬ ▬▬▬ ▬▬ ▬ ▬▬▬ ▬▬▬▬ ▬▬ ▬ ▬▬▬ ▬▬ ▬▬ ▬▬▬ ▬ ▬▬▬▬ ▬▬ ▬▬▬ ▬▬ ▬ ▬▬▬ ▬▬▬▬ ▬▬ ▬ ▬▬▬ ▬▬ ▬▬ ▬▬▬ ▬ ▬▬▬▬ ▬▬ ▬▬▬ ▬▬ ▬ ▬▬▬ ▬▬▬▬ ▬▬ ▬ ▬▬▬ ▬▬ ▬▬ ▬▬▬ ▬ ▬▬▬▬ ▬▬ ▬▬▬ ▬▬ ▬ ▬▬▬ ▬▬▬▬ ▬▬ ▬ ▬▬▬ ▬▬ ▬▬ ▬▬▬ ▬ ▬▬▬▬ ▬▬ ▬▬▬ ▬▬ ▬ ▬▬▬ ▬▬▬▬ ▬▬ ▬ ▬▬▬ ▬▬ ▬▬ ▬▬▬ ▬ ▬▬▬▬ ▬▬ ▬▬▬ ▬▬ ▬ ▬▬▬ ▬▬▬▬ ▬▬ ▬ ▬▬▬ ▬▬ ▬▬ ▬▬▬ ▬ ▬▬▬▬ ▬▬ ▬▬▬ ▬▬ ▬ ▬▬▬ ▬▬▬▬ ▬▬ ▬ ▬▬▬ ▬▬
भगवान सूर्य को समर्पित धनु
संक्रांति मनाई जाएगी आज
▬▬ ▬▬▬ ▬ ▬▬▬▬ ▬▬ ▬▬▬ ▬▬ ▬ ▬▬▬ ▬▬▬▬ ▬▬ ▬ ▬▬▬ ▬▬ ▬▬ ▬▬▬ ▬ ▬▬▬▬ ▬▬ ▬▬▬ ▬▬ ▬ ▬▬▬ ▬▬▬▬ ▬▬ ▬ ▬▬▬ ▬▬ ▬▬ ▬▬▬ ▬ ▬▬▬▬ ▬▬ ▬▬▬ ▬▬ ▬ ▬▬▬ ▬▬▬▬ ▬▬ ▬ ▬▬▬ ▬▬ ▬▬ ▬▬▬ ▬ ▬▬▬▬ ▬▬ ▬▬▬ ▬▬ ▬ ▬▬▬ ▬▬▬▬ ▬▬ ▬ ▬▬▬ ▬▬ ▬▬ ▬▬▬ ▬ ▬▬▬▬ ▬▬ ▬▬▬ ▬▬ ▬ ▬▬▬ ▬▬▬▬ ▬▬ ▬ ▬▬▬ ▬▬ ▬▬ ▬▬▬ ▬ ▬▬▬▬ ▬▬ ▬▬▬ ▬▬ ▬ ▬▬▬ ▬▬▬▬ ▬▬ ▬ ▬▬▬ ▬▬ ▬▬ ▬▬▬ ▬ ▬▬▬▬ ▬▬ ▬▬▬ ▬▬ ▬ ▬▬▬ ▬▬▬▬ ▬▬ ▬ ▬▬▬ ▬▬ ▬▬ ▬▬▬ ▬ ▬▬▬▬ ▬▬ ▬▬▬ ▬▬ ▬ ▬▬▬ ▬▬▬▬ ▬▬ ▬ ▬▬▬ ▬▬ ▬▬ ▬▬▬ ▬ ▬▬▬▬ ▬▬ ▬▬▬ ▬▬ ▬ ▬▬▬ ▬▬▬▬ ▬▬ ▬ ▬▬▬ ▬▬ ▬▬ ▬▬▬ ▬ ▬▬▬▬ ▬▬ ▬▬▬ ▬▬ ▬ ▬▬▬ ▬▬▬▬ ▬▬ ▬ ▬▬▬ ▬▬ ▬▬ ▬▬▬ ▬ ▬▬▬▬ ▬▬ ▬▬▬ ▬▬ ▬ ▬▬▬ ▬▬▬▬ ▬▬ ▬ ▬▬▬ ▬▬ ▬▬ ▬▬▬ ▬ ▬▬▬▬ ▬▬ ▬▬▬ ▬▬ ▬ ▬▬▬ ▬▬▬▬ ▬▬ ▬ ▬▬▬ ▬▬ ▬▬ ▬▬▬ ▬ ▬▬▬▬ ▬▬ ▬▬▬ ▬▬ ▬ ▬▬▬ ▬▬▬▬ ▬▬ ▬ ▬▬▬ ▬▬ ▬▬ ▬▬▬ ▬ ▬▬▬▬ ▬▬ ▬▬▬ ▬▬ ▬ ▬▬▬ ▬▬▬▬ ▬▬ ▬ ▬▬▬ ▬▬ ▬▬ ▬▬▬ ▬ ▬▬▬▬ ▬▬ ▬▬▬ ▬▬ ▬ ▬▬▬ ▬▬▬▬ ▬▬ ▬ ▬▬▬ ▬▬ ▬▬ ▬▬▬ ▬ ▬▬▬▬ ▬▬ ▬▬▬ ▬▬ ▬ ▬▬▬ ▬▬▬▬ ▬▬ ▬ ▬▬▬ ▬▬ ▬▬ ▬▬▬ ▬ ▬▬▬▬ ▬▬ ▬▬▬ ▬▬ ▬ ▬▬▬ ▬▬▬▬ ▬▬ ▬ ▬▬▬ ▬▬ ▬▬ ▬▬▬ ▬ ▬▬▬▬ ▬▬ ▬▬▬ ▬▬ ▬ ▬▬▬ ▬▬▬▬ ▬▬ ▬ ▬▬▬ ▬▬ ▬▬ ▬▬▬ ▬ ▬▬▬▬ ▬▬ ▬▬▬ ▬▬ ▬ ▬▬▬ ▬▬▬▬ ▬▬ ▬ ▬▬▬ ▬▬ ▬▬ ▬▬▬ ▬ ▬▬▬▬ ▬▬ ▬▬▬ ▬▬ ▬ ▬▬▬ ▬▬▬▬ ▬▬ ▬ ▬▬▬ ▬▬ ▬▬ ▬▬▬ ▬ ▬▬▬▬ ▬▬ ▬▬▬ ▬▬ ▬ ▬▬▬ ▬▬▬▬ ▬▬ ▬ ▬▬▬ ▬▬ ▬▬ ▬▬▬ ▬ ▬▬▬▬ ▬▬ ▬▬▬ ▬▬ ▬ ▬▬▬ ▬▬▬▬ ▬▬ ▬ ▬▬▬ ▬▬ ▬▬ ▬▬▬ ▬ ▬▬▬▬ ▬▬ ▬▬▬ ▬▬ ▬ ▬▬▬ ▬▬▬▬ ▬▬ ▬ ▬▬▬ ▬▬ ▬▬ ▬▬▬ ▬ ▬▬▬▬ ▬▬ ▬▬▬ ▬▬ ▬ ▬▬▬ ▬▬▬▬ ▬▬ ▬ ▬▬▬ ▬▬ ▬▬ ▬▬▬ ▬ ▬▬▬▬ ▬▬ ▬▬▬ ▬▬ ▬ ▬▬▬ ▬▬▬▬ ▬▬ ▬ ▬▬▬ ▬▬ ▬▬ ▬▬▬ ▬ ▬▬▬▬ ▬▬ ▬▬▬ ▬▬ ▬ ▬▬▬ ▬▬▬▬ ▬▬ ▬ ▬▬▬ ▬▬ ▬▬ ▬▬▬ ▬ ▬▬▬▬ ▬▬ ▬▬▬ ▬▬ ▬ ▬▬▬ ▬▬▬▬ ▬▬ ▬ ▬▬▬ ▬▬ ▬▬ ▬▬▬ ▬ ▬▬▬▬ ▬▬ ▬▬▬ ▬▬ ▬ ▬▬▬ ▬▬▬▬ ▬▬ ▬ ▬▬▬ ▬▬ ▬▬ ▬▬▬ ▬ ▬▬▬▬ ▬▬ ▬▬▬ ▬▬ ▬ ▬▬▬ ▬▬▬▬ ▬▬ ▬ ▬▬▬ ▬▬ ▬▬ ▬▬▬ ▬ ▬▬▬▬ ▬▬ ▬▬▬ ▬▬ ▬ ▬▬▬ ▬▬▬▬ ▬▬ ▬ ▬▬▬ ▬▬ ▬▬ ▬▬▬ ▬ ▬▬▬▬ ▬▬ ▬▬▬ ▬▬ ▬ ▬▬▬ ▬▬▬▬ ▬▬ ▬ ▬▬▬ ▬▬ ▬▬ ▬▬▬ ▬ ▬▬▬▬ ▬▬ ▬▬▬ ▬▬ ▬ ▬▬▬ ▬▬▬▬ ▬▬ ▬ ▬▬▬ ▬▬ ▬▬ ▬▬▬ ▬ ▬▬▬▬ ▬▬ ▬▬▬ ▬▬ ▬ ▬▬▬ ▬▬▬▬ ▬▬ ▬ ▬▬▬ ▬▬ ▬▬ ▬▬▬ ▬ ▬▬▬▬ ▬▬ ▬▬▬ ▬▬ ▬ ▬▬▬ ▬▬▬▬ ▬▬ ▬ ▬▬▬ ▬▬ ▬▬ ▬▬▬ ▬ ▬▬▬▬ ▬▬ ▬▬▬ ▬▬ ▬ ▬▬▬ ▬▬▬▬ ▬▬ ▬ ▬▬▬ ▬▬ ▬▬ ▬▬▬ ▬ ▬▬▬▬ ▬▬ ▬▬▬ ▬▬ ▬ ▬▬▬ ▬▬▬▬ ▬▬ ▬ ▬▬▬ ▬▬ ▬▬ ▬▬▬ ▬ ▬▬▬▬ ▬▬ ▬▬▬ ▬▬ ▬ ▬▬▬ ▬▬▬▬ ▬▬ ▬ ▬▬▬ ▬▬ ▬▬ ▬▬▬ ▬ ▬▬▬▬ ▬▬ ▬▬▬ ▬▬ ▬ ▬▬▬ ▬▬▬▬ ▬▬ ▬ ▬▬▬ ▬▬ ▬▬ ▬▬▬ ▬ ▬▬▬▬ ▬▬ ▬▬▬ ▬▬ ▬ ▬▬▬ ▬▬▬▬ ▬▬ ▬ ▬▬▬ ▬▬ ▬▬ ▬▬▬ ▬ ▬▬▬▬ ▬▬ ▬▬▬ ▬▬ ▬ ▬▬▬ ▬▬▬▬ ▬▬ ▬ ▬▬▬ ▬▬ ▬▬ ▬▬▬ ▬ ▬▬▬▬ ▬▬ ▬▬▬ ▬▬ ▬ ▬▬▬ ▬▬▬▬ ▬▬ ▬ ▬▬▬ ▬▬ ▬▬ ▬▬▬ ▬ ▬▬▬▬ ▬▬ ▬▬▬ ▬▬ ▬ ▬▬▬ ▬▬▬▬ ▬▬ ▬ ▬▬▬ ▬▬ ▬▬ ▬▬▬ ▬ ▬▬▬▬ ▬▬ ▬▬▬ ▬▬ ▬ ▬▬▬ ▬▬▬▬ ▬▬ ▬ ▬▬▬ ▬▬ ▬▬ ▬▬▬ ▬ ▬▬▬▬ ▬▬ ▬▬▬ ▬▬ ▬ ▬▬▬ ▬▬▬▬ ▬▬ ▬ ▬▬▬ ▬▬ ▬▬ ▬▬▬ ▬ ▬▬▬▬ ▬▬ ▬▬▬ ▬▬ ▬ ▬▬▬ ▬▬▬▬ ▬▬ ▬ ▬▬▬ ▬▬ ▬▬ ▬▬▬ ▬ ▬▬▬▬ ▬▬ ▬▬▬ ▬▬ ▬ ▬▬▬ ▬▬▬▬ ▬▬ ▬ ▬▬▬ ▬▬ ▬▬ ▬▬▬ ▬ ▬▬▬▬ ▬▬ ▬▬▬ ▬▬ ▬ ▬▬▬ ▬▬▬▬ ▬▬ ▬ ▬▬▬ ▬▬ ▬▬ ▬▬▬ ▬ ▬▬▬▬ ▬▬ ▬▬▬ ▬▬ ▬ ▬▬▬ ▬▬▬▬ ▬▬ ▬ ▬▬▬ ▬▬ ▬▬ ▬▬▬ ▬ ▬▬▬▬ ▬▬ ▬▬▬ ▬▬ ▬ ▬▬▬ ▬▬▬▬ ▬▬ ▬ ▬▬▬ ▬▬ ▬▬ ▬▬▬ ▬ ▬▬▬▬ ▬▬ ▬▬▬ ▬▬ ▬ ▬▬▬ ▬▬▬▬ ▬▬ ▬ ▬▬▬ ▬▬ ▬▬ ▬▬▬ ▬ ▬▬▬▬ ▬▬ ▬▬▬ ▬▬ ▬ ▬▬▬ ▬▬▬▬ ▬▬ ▬ ▬▬▬ ▬▬ ▬▬ ▬▬▬ ▬ ▬▬▬▬ ▬▬ ▬▬▬ ▬▬ ▬ ▬▬▬ ▬▬▬▬ ▬▬ ▬ ▬▬▬ ▬▬ ▬▬ ▬▬▬ ▬ ▬▬▬▬ ▬▬ ▬▬▬ ▬▬ ▬ ▬▬▬ ▬▬▬▬ ▬▬ ▬ ▬▬▬ ▬▬ ▬▬ ▬▬▬ ▬ ▬▬▬▬ ▬▬ ▬▬▬ ▬▬ ▬ ▬▬▬ ▬▬▬▬ ▬▬ ▬ ▬▬▬ ▬▬ ▬▬ ▬▬▬ ▬ ▬▬▬▬ ▬▬ ▬▬▬ ▬▬ ▬ ▬▬▬ ▬▬▬▬ ▬▬ ▬ ▬▬▬ ▬▬ ▬▬ ▬▬▬ ▬ ▬▬▬▬ ▬▬ ▬▬▬ ▬▬ ▬ ▬▬▬ ▬▬▬▬ ▬▬ ▬ ▬▬▬ ▬▬ ▬▬ ▬▬▬ ▬ ▬▬▬▬ ▬▬ ▬▬▬ ▬▬ ▬ ▬▬▬ ▬▬▬▬ ▬▬ ▬ ▬▬▬ ▬▬ ▬▬ ▬▬▬ ▬ ▬▬▬▬ ▬▬ ▬▬▬ ▬▬ ▬ ▬▬▬ ▬▬▬▬ ▬▬ ▬ ▬▬▬ ▬▬ ▬▬ ▬▬▬ ▬ ▬▬▬▬ ▬▬ ▬▬▬ ▬▬ ▬ ▬▬▬ ▬▬▬▬ ▬▬ ▬ ▬▬▬ ▬▬ ▬▬ ▬▬▬ ▬ ▬▬▬▬ ▬▬ ▬▬▬ ▬▬ ▬ ▬▬▬ ▬▬▬▬ ▬▬ ▬ ▬▬▬ ▬▬
▬▬ ▬▬▬ ▬ ▬▬▬▬ ▬▬ ▬▬▬ ▬▬ ▬ ▬▬▬ ▬▬▬▬ ▬▬ ▬ ▬▬▬ ▬▬ ▬▬ ▬▬▬ ▬ ▬▬▬▬ ▬▬ ▬▬▬ ▬▬ ▬ ▬▬▬ ▬▬▬▬ ▬▬ ▬ ▬▬▬ ▬▬ ▬▬ ▬▬▬ ▬ ▬▬▬▬ ▬▬ ▬▬▬ ▬▬ ▬ ▬▬▬ ▬▬▬▬ ▬▬ ▬ ▬▬▬ ▬▬ ▬▬ ▬▬▬ ▬ ▬▬▬▬ ▬▬ ▬▬▬ ▬▬ ▬ ▬▬▬ ▬▬▬▬ ▬▬ ▬ ▬▬▬ ▬▬ ▬▬ ▬▬▬ ▬ ▬▬▬▬ ▬▬ ▬▬▬ ▬▬ ▬ ▬▬▬ ▬▬▬▬ ▬▬ ▬ ▬▬▬ ▬▬ ▬▬ ▬▬▬ ▬ ▬▬▬▬ ▬▬ ▬▬▬ ▬▬ ▬ ▬▬▬ ▬▬▬▬ ▬▬ ▬ ▬▬▬ ▬▬ ▬▬ ▬▬▬ ▬ ▬▬▬▬ ▬▬ ▬▬▬ ▬▬ ▬ ▬▬▬ ▬▬▬▬ ▬▬ ▬ ▬▬▬ ▬▬ ▬▬ ▬▬▬ ▬ ▬▬▬▬ ▬▬ ▬▬▬ ▬▬ ▬ ▬▬▬ ▬▬▬▬ ▬▬ ▬ ▬▬▬ ▬▬ ▬▬ ▬▬▬ ▬ ▬▬▬▬ ▬▬ ▬▬▬ ▬▬ ▬ ▬▬▬ ▬▬▬▬ ▬▬ ▬ ▬▬▬ ▬▬ ▬▬ ▬▬▬ ▬ ▬▬▬▬ ▬▬ ▬▬▬ ▬▬ ▬ ▬▬▬ ▬▬▬▬ ▬▬ ▬ ▬▬▬ ▬▬ ▬▬ ▬▬▬ ▬ ▬▬▬▬ ▬▬ ▬▬▬ ▬▬ ▬ ▬▬▬ ▬▬▬▬ ▬▬ ▬ ▬▬▬ ▬▬ ▬▬ ▬▬▬ ▬ ▬▬▬▬ ▬▬ ▬▬▬ ▬▬ ▬ ▬▬▬ ▬▬▬▬ ▬▬ ▬ ▬▬▬ ▬▬ ▬▬ ▬▬▬ ▬ ▬▬▬▬ ▬▬ ▬▬▬ ▬▬ ▬ ▬▬▬ ▬▬▬▬ ▬▬ ▬ ▬▬▬ ▬▬ ▬▬ ▬▬▬ ▬ ▬▬▬▬ ▬▬ ▬▬▬ ▬▬ ▬ ▬▬▬ ▬▬▬▬ ▬▬ ▬ ▬▬▬ ▬▬ ▬▬ ▬▬▬ ▬ ▬▬▬▬ ▬▬ ▬▬▬ ▬▬ ▬ ▬▬▬ ▬▬▬▬ ▬▬ ▬ ▬▬▬ ▬▬ ▬▬ ▬▬▬ ▬ ▬▬▬▬ ▬▬ ▬▬▬ ▬▬ ▬ ▬▬▬ ▬▬▬▬ ▬▬ ▬ ▬▬▬ ▬▬ ▬▬ ▬▬▬ ▬ ▬▬▬▬ ▬▬ ▬▬▬ ▬▬ ▬ ▬▬▬ ▬▬▬▬ ▬▬ ▬ ▬▬▬ ▬▬ ▬▬ ▬▬▬ ▬ ▬▬▬▬ ▬▬ ▬▬▬ ▬▬ ▬ ▬▬▬ ▬▬▬▬ ▬▬ ▬ ▬▬▬ ▬▬ ▬▬ ▬▬▬ ▬ ▬▬▬▬ ▬▬ ▬▬▬ ▬▬ ▬ ▬▬▬ ▬▬▬▬ ▬▬ ▬ ▬▬▬ ▬▬ ▬▬ ▬▬▬ ▬ ▬▬▬▬ ▬▬ ▬▬▬ ▬▬ ▬ ▬▬▬ ▬▬▬▬ ▬▬ ▬ ▬▬▬ ▬▬ ▬▬ ▬▬▬ ▬ ▬▬▬▬ ▬▬ ▬▬▬ ▬▬ ▬ ▬▬▬ ▬▬▬▬ ▬▬ ▬ ▬▬▬ ▬▬ ▬▬ ▬▬▬ ▬ ▬▬▬▬ ▬▬ ▬▬▬ ▬▬ ▬ ▬▬▬ ▬▬▬▬ ▬▬ ▬ ▬▬▬ ▬▬ ▬▬ ▬▬▬ ▬ ▬▬▬▬ ▬▬ ▬▬▬ ▬▬ ▬ ▬▬▬ ▬▬▬▬ ▬▬ ▬ ▬▬▬ ▬▬ ▬▬ ▬▬▬ ▬ ▬▬▬▬ ▬▬ ▬▬▬ ▬▬ ▬ ▬▬▬ ▬▬▬▬ ▬▬ ▬ ▬▬▬ ▬▬ ▬▬ ▬▬▬ ▬ ▬▬▬▬ ▬▬ ▬▬▬ ▬▬ ▬ ▬▬▬ ▬▬▬▬ ▬▬ ▬ ▬▬▬ ▬▬ ▬▬ ▬▬▬ ▬ ▬▬▬▬ ▬▬ ▬▬▬ ▬▬ ▬ ▬▬▬ ▬▬▬▬ ▬▬ ▬ ▬▬▬ ▬▬ ▬▬ ▬▬▬ ▬ ▬▬▬▬ ▬▬ ▬▬▬ ▬▬ ▬ ▬▬▬ ▬▬▬▬ ▬▬ ▬ ▬▬▬ ▬▬ ▬▬ ▬▬▬ ▬ ▬▬▬▬ ▬▬ ▬▬▬ ▬▬ ▬ ▬▬▬ ▬▬▬▬ ▬▬ ▬ ▬▬▬ ▬▬ ▬▬ ▬▬▬ ▬ ▬▬▬▬ ▬▬ ▬▬▬ ▬▬ ▬ ▬▬▬ ▬▬▬▬ ▬▬ ▬ ▬▬▬ ▬▬ ▬▬ ▬▬▬ ▬ ▬▬▬▬ ▬▬ ▬▬▬ ▬▬ ▬ ▬▬▬ ▬▬▬▬ ▬▬ ▬ ▬▬▬ ▬▬ ▬▬ ▬▬▬ ▬ ▬▬▬▬ ▬▬ ▬▬▬ ▬▬ ▬ ▬▬▬ ▬▬▬▬ ▬▬ ▬ ▬▬▬ ▬▬ ▬▬ ▬▬▬ ▬ ▬▬▬▬ ▬▬ ▬▬▬ ▬▬ ▬ ▬▬▬ ▬▬▬▬ ▬▬ ▬ ▬▬▬ ▬▬ ▬▬ ▬▬▬ ▬ ▬▬▬▬ ▬▬ ▬▬▬ ▬▬ ▬ ▬▬▬ ▬▬▬▬ ▬▬ ▬ ▬▬▬ ▬▬ ▬▬ ▬▬▬ ▬ ▬▬▬▬ ▬▬ ▬▬▬ ▬▬ ▬ ▬▬▬ ▬▬▬▬ ▬▬ ▬ ▬▬▬ ▬▬ ▬▬ ▬▬▬ ▬ ▬▬▬▬ ▬▬ ▬▬▬ ▬▬ ▬ ▬▬▬ ▬▬▬▬ ▬▬ ▬ ▬▬▬ ▬▬ ▬▬ ▬▬▬ ▬ ▬▬▬▬ ▬▬ ▬▬▬ ▬▬ ▬ ▬▬▬ ▬▬▬▬ ▬▬ ▬ ▬▬▬ ▬▬ ▬▬ ▬▬▬ ▬ ▬▬▬▬ ▬▬ ▬▬▬ ▬▬ ▬ ▬▬▬ ▬▬▬▬ ▬▬ ▬ ▬▬▬ ▬▬ ▬▬ ▬▬▬ ▬ ▬▬▬▬ ▬▬ ▬▬▬ ▬▬ ▬ ▬▬▬ ▬▬▬▬ ▬▬ ▬ ▬▬▬ ▬▬ ▬▬ ▬▬▬ ▬ ▬▬▬▬ ▬▬ ▬▬▬ ▬▬ ▬ ▬▬▬ ▬▬▬▬ ▬▬ ▬ ▬▬▬ ▬▬ ▬▬ ▬▬▬ ▬ ▬▬▬▬ ▬▬ ▬▬▬ ▬▬ ▬ ▬▬▬ ▬▬▬▬ ▬▬ ▬ ▬▬▬ ▬▬ ▬▬ ▬▬▬ ▬ ▬▬▬▬ ▬▬ ▬▬▬ ▬▬ ▬ ▬▬▬ ▬▬▬▬ ▬▬ ▬ ▬▬▬ ▬▬ ▬▬ ▬▬▬ ▬ ▬▬▬▬ ▬▬ ▬▬▬ ▬▬ ▬ ▬▬▬ ▬▬▬▬ ▬▬ ▬ ▬▬▬ ▬▬ ▬▬ ▬▬▬ ▬ ▬▬▬▬ ▬▬ ▬▬▬ ▬▬ ▬ ▬▬▬ ▬▬▬▬ ▬▬ ▬ ▬▬▬ ▬▬ ▬▬ ▬▬▬ ▬ ▬▬▬▬ ▬▬ ▬▬▬ ▬▬ ▬ ▬▬▬ ▬▬▬▬ ▬▬ ▬ ▬▬▬ ▬▬ ▬▬ ▬▬▬ ▬ ▬▬▬▬ ▬▬ ▬▬▬ ▬▬ ▬ ▬▬▬ ▬▬▬▬ ▬▬ ▬ ▬▬▬ ▬▬ ▬▬ ▬▬▬ ▬ ▬▬▬▬ ▬▬ ▬▬▬ ▬▬ ▬ ▬▬▬ ▬▬▬▬ ▬▬ ▬ ▬▬▬ ▬▬ ▬▬ ▬▬▬ ▬ ▬▬▬▬ ▬▬ ▬▬▬ ▬▬ ▬ ▬▬▬ ▬▬▬▬ ▬▬ ▬ ▬▬▬ ▬▬ ▬▬ ▬▬▬ ▬ ▬▬▬▬ ▬▬ ▬▬▬ ▬▬ ▬ ▬▬▬ ▬▬▬▬ ▬▬ ▬ ▬▬▬ ▬▬ ▬▬ ▬▬▬ ▬ ▬▬▬▬ ▬▬ ▬▬▬ ▬▬ ▬ ▬▬▬ ▬▬▬▬ ▬▬ ▬ ▬▬▬ ▬▬ ▬▬ ▬▬▬ ▬ ▬▬▬▬ ▬▬ ▬▬▬ ▬▬ ▬ ▬▬▬ ▬▬▬▬ ▬▬ ▬ ▬▬▬ ▬▬ ▬▬ ▬▬▬ ▬ ▬▬▬▬ ▬▬ ▬▬▬ ▬▬ ▬ ▬▬▬ ▬▬▬▬ ▬▬ ▬ ▬▬▬ ▬▬ ▬▬ ▬▬▬ ▬ ▬▬▬▬ ▬▬ ▬▬▬ ▬▬ ▬ ▬▬▬ ▬▬▬▬ ▬▬ ▬ ▬▬▬ ▬▬ ▬▬ ▬▬▬ ▬ ▬▬▬▬ ▬▬ ▬▬▬ ▬▬ ▬ ▬▬▬ ▬▬▬▬ ▬▬ ▬ ▬▬▬ ▬▬ ▬▬ ▬▬▬ ▬ ▬▬▬▬ ▬▬ ▬▬▬ ▬▬ ▬ ▬▬▬ ▬▬▬▬ ▬▬ ▬ ▬▬▬ ▬▬ ▬▬ ▬▬▬ ▬ ▬▬▬▬ ▬▬ ▬▬▬ ▬▬ ▬ ▬▬▬ ▬▬▬▬ ▬▬ ▬ ▬▬▬ ▬▬ ▬▬ ▬▬▬ ▬ ▬▬▬▬ ▬▬ ▬▬▬ ▬▬ ▬ ▬▬▬ ▬▬▬▬ ▬▬ ▬ ▬▬▬ ▬▬ ▬▬ ▬▬▬ ▬ ▬▬▬▬ ▬▬ ▬▬▬ ▬▬ ▬ ▬▬▬ ▬▬▬▬ ▬▬ ▬ ▬▬▬ ▬▬ ▬▬ ▬▬▬ ▬ ▬▬▬▬ ▬▬ ▬▬▬ ▬▬ ▬ ▬▬▬ ▬▬▬▬ ▬▬ ▬ ▬▬▬ ▬▬ ▬▬ ▬▬▬ ▬ ▬▬▬▬ ▬▬ ▬▬▬ ▬▬ ▬ ▬▬▬ ▬▬▬▬ ▬▬ ▬ ▬▬▬ ▬▬ ▬▬ ▬▬▬ ▬ ▬▬▬▬ ▬▬ ▬▬▬ ▬▬ ▬ ▬▬▬ ▬▬▬▬ ▬▬ ▬ ▬▬▬ ▬▬
▬▬ ▬▬▬ ▬ ▬▬▬▬ ▬▬ ▬▬▬ ▬▬ ▬ ▬▬▬ ▬▬▬▬ ▬▬ ▬ ▬▬▬ ▬▬ ▬▬ ▬▬▬ ▬ ▬▬▬▬ ▬▬ ▬▬▬ ▬▬ ▬ ▬▬▬ ▬▬▬▬ ▬▬ ▬ ▬▬▬ ▬▬ ▬▬ ▬▬▬ ▬ ▬▬▬▬ ▬▬ ▬▬▬ ▬▬ ▬ ▬▬▬ ▬▬▬▬ ▬▬ ▬ ▬▬▬ ▬▬ ▬▬ ▬▬▬ ▬ ▬▬▬▬ ▬▬ ▬▬▬ ▬▬ ▬ ▬▬▬ ▬▬▬▬ ▬▬ ▬ ▬▬▬ ▬▬ ▬▬ ▬▬▬ ▬ ▬▬▬▬ ▬▬ ▬▬▬ ▬▬ ▬ ▬▬▬ ▬▬▬▬ ▬▬ ▬ ▬▬▬ ▬▬ ▬▬ ▬▬▬ ▬ ▬▬▬▬ ▬▬ ▬▬▬ ▬▬ ▬ ▬▬▬ ▬▬▬▬ ▬▬ ▬ ▬▬▬ ▬▬ ▬▬ ▬▬▬ ▬ ▬▬▬▬ ▬▬ ▬▬▬ ▬▬ ▬ ▬▬▬ ▬▬▬▬ ▬▬ ▬ ▬▬▬ ▬▬ ▬▬ ▬▬▬ ▬ ▬▬▬▬ ▬▬ ▬▬▬ ▬▬ ▬ ▬▬▬ ▬▬▬▬ ▬▬ ▬ ▬▬▬ ▬▬ ▬▬ ▬▬▬ ▬ ▬▬▬▬ ▬▬ ▬▬▬ ▬▬ ▬ ▬▬▬ ▬▬▬▬ ▬▬ ▬ ▬▬▬ ▬▬ ▬▬ ▬▬▬ ▬ ▬▬▬▬ ▬▬ ▬▬▬ ▬▬ ▬ ▬▬▬ ▬▬▬▬ ▬▬ ▬ ▬▬▬ ▬▬ ▬▬ ▬▬▬ ▬ ▬▬▬▬ ▬▬ ▬▬▬ ▬▬ ▬ ▬▬▬ ▬▬▬▬ ▬▬ ▬ ▬▬▬ ▬▬ ▬▬ ▬▬▬ ▬ ▬▬▬▬ ▬▬ ▬▬▬ ▬▬ ▬ ▬▬▬ ▬▬▬▬ ▬▬ ▬ ▬▬▬ ▬▬ ▬▬ ▬▬▬ ▬ ▬▬▬▬ ▬▬ ▬▬▬ ▬▬ ▬ ▬▬▬ ▬▬▬▬ ▬▬ ▬ ▬▬▬ ▬▬ ▬▬ ▬▬▬ ▬ ▬▬▬▬ ▬▬ ▬▬▬ ▬▬ ▬ ▬▬▬ ▬▬▬▬ ▬▬ ▬ ▬▬▬ ▬▬ ▬▬ ▬▬▬ ▬ ▬▬▬▬ ▬▬ ▬▬▬ ▬▬ ▬ ▬▬▬ ▬▬▬▬ ▬▬ ▬ ▬▬▬ ▬▬ ▬▬ ▬▬▬ ▬ ▬▬▬▬ ▬▬ ▬▬▬ ▬▬ ▬ ▬▬▬ ▬▬▬▬ ▬▬ ▬ ▬▬▬ ▬▬ ▬▬ ▬▬▬ ▬ ▬▬▬▬ ▬▬ ▬▬▬ ▬▬ ▬ ▬▬▬ ▬▬▬▬ ▬▬ ▬ ▬▬▬ ▬▬ ▬▬ ▬▬▬ ▬ ▬▬▬▬ ▬▬ ▬▬▬ ▬▬ ▬ ▬▬▬ ▬▬▬▬ ▬▬ ▬ ▬▬▬ ▬▬ ▬▬ ▬▬▬ ▬ ▬▬▬▬ ▬▬ ▬▬▬ ▬▬ ▬ ▬▬▬ ▬▬▬▬ ▬▬ ▬ ▬▬▬ ▬▬ ▬▬ ▬▬▬ ▬ ▬▬▬▬ ▬▬ ▬▬▬ ▬▬ ▬ ▬▬▬ ▬▬▬▬ ▬▬ ▬ ▬▬▬ ▬▬ ▬▬ ▬▬▬ ▬ ▬▬▬▬ ▬▬ ▬▬▬ ▬▬ ▬ ▬▬▬ ▬▬▬▬ ▬▬ ▬ ▬▬▬ ▬▬ ▬▬ ▬▬▬ ▬ ▬▬▬▬ ▬▬ ▬▬▬ ▬▬ ▬ ▬▬▬ ▬▬▬▬ ▬▬ ▬ ▬▬▬ ▬▬ ▬▬ ▬▬▬ ▬ ▬▬▬▬ ▬▬ ▬▬▬ ▬▬ ▬ ▬▬▬ ▬▬▬▬ ▬▬ ▬ ▬▬▬ ▬▬ ▬▬ ▬▬▬ ▬ ▬▬▬▬ ▬▬ ▬▬▬ ▬▬ ▬ ▬▬▬ ▬▬▬▬ ▬▬ ▬ ▬▬▬ ▬▬ ▬▬ ▬▬▬ ▬ ▬▬▬▬ ▬▬ ▬▬▬ ▬▬ ▬ ▬▬▬ ▬▬▬▬ ▬▬ ▬ ▬▬▬ ▬▬ ▬▬ ▬▬▬ ▬ ▬▬▬▬ ▬▬ ▬▬▬ ▬▬ ▬ ▬▬▬ ▬▬▬▬ ▬▬ ▬ ▬▬▬ ▬▬ ▬▬ ▬▬▬ ▬ ▬▬▬▬ ▬▬ ▬▬▬ ▬▬ ▬ ▬▬▬ ▬▬▬▬ ▬▬ ▬ ▬▬▬ ▬▬ ▬▬ ▬▬▬ ▬ ▬▬▬▬ ▬▬ ▬▬▬ ▬▬ ▬ ▬▬▬ ▬▬▬▬ ▬▬ ▬ ▬▬▬ ▬▬ ▬▬ ▬▬▬ ▬ ▬▬▬▬ ▬▬ ▬▬▬ ▬▬ ▬ ▬▬▬ ▬▬▬▬ ▬▬ ▬ ▬▬▬ ▬▬ ▬▬ ▬▬▬ ▬ ▬▬▬▬ ▬▬ ▬▬▬ ▬▬ ▬ ▬▬▬ ▬▬▬▬ ▬▬ ▬ ▬▬▬ ▬▬ ▬▬ ▬▬▬ ▬ ▬▬▬▬ ▬▬ ▬▬▬ ▬▬ ▬ ▬▬▬ ▬▬▬▬ ▬▬ ▬ ▬▬▬ ▬▬ ▬▬ ▬▬▬ ▬ ▬▬▬▬ ▬▬ ▬▬▬ ▬▬ ▬ ▬▬▬ ▬▬▬▬ ▬▬ ▬ ▬▬▬ ▬▬ ▬▬ ▬▬▬ ▬ ▬▬▬▬ ▬▬ ▬▬▬ ▬▬ ▬ ▬▬▬ ▬▬▬▬ ▬▬ ▬ ▬▬▬ ▬▬ ▬▬ ▬▬▬ ▬ ▬▬▬▬ ▬▬ ▬▬▬ ▬▬ ▬ ▬▬▬ ▬▬▬▬ ▬▬ ▬ ▬▬▬ ▬▬ ▬▬ ▬▬▬ ▬ ▬▬▬▬ ▬▬ ▬▬▬ ▬▬ ▬ ▬▬▬ ▬▬▬▬ ▬▬ ▬ ▬▬▬ ▬▬ ▬▬ ▬▬▬ ▬ ▬▬▬▬ ▬▬ ▬▬▬ ▬▬ ▬ ▬▬▬ ▬▬▬▬ ▬▬ ▬ ▬▬▬ ▬▬ ▬▬ ▬▬▬ ▬ ▬▬▬▬ ▬▬ ▬▬▬ ▬▬ ▬ ▬▬▬ ▬▬▬▬ ▬▬ ▬ ▬▬▬ ▬▬ ▬▬ ▬▬▬ ▬ ▬▬▬▬ ▬▬ ▬▬▬ ▬▬ ▬ ▬▬▬ ▬▬▬▬ ▬▬ ▬ ▬▬▬ ▬▬ ▬▬ ▬▬▬ ▬ ▬▬▬▬ ▬▬ ▬▬▬ ▬▬ ▬ ▬▬▬ ▬▬▬▬ ▬▬ ▬ ▬▬▬ ▬▬ ▬▬ ▬▬▬ ▬ ▬▬▬▬ ▬▬ ▬▬▬ ▬▬ ▬ ▬▬▬ ▬▬▬▬ ▬▬ ▬ ▬▬▬ ▬▬ ▬▬ ▬▬▬ ▬ ▬▬▬▬ ▬▬ ▬▬▬ ▬▬ ▬ ▬▬▬ ▬▬▬▬ ▬▬ ▬ ▬▬▬ ▬▬ ▬▬ ▬▬▬ ▬ ▬▬▬▬ ▬▬ ▬▬▬ ▬▬ ▬ ▬▬▬ ▬▬▬▬ ▬▬ ▬ ▬▬▬ ▬▬ ▬▬ ▬▬▬ ▬ ▬▬▬▬ ▬▬ ▬▬▬ ▬▬ ▬ ▬▬▬ ▬▬▬▬ ▬▬ ▬ ▬▬▬ ▬▬ ▬▬ ▬▬▬ ▬ ▬▬▬▬ ▬▬ ▬▬▬ ▬▬ ▬ ▬▬▬ ▬▬▬▬ ▬▬ ▬ ▬▬▬ ▬▬ ▬▬ ▬▬▬ ▬ ▬▬▬▬ ▬▬ ▬▬▬ ▬▬ ▬ ▬▬▬ ▬▬▬▬ ▬▬ ▬ ▬▬▬ ▬▬ ▬▬ ▬▬▬ ▬ ▬▬▬▬ ▬▬ ▬▬▬ ▬▬ ▬ ▬▬▬ ▬▬▬▬ ▬▬ ▬ ▬▬▬ ▬▬ ▬▬ ▬▬▬ ▬ ▬▬▬▬ ▬▬ ▬▬▬ ▬▬ ▬ ▬▬▬ ▬▬▬▬ ▬▬ ▬ ▬▬▬ ▬▬ ▬▬ ▬▬▬ ▬ ▬▬▬▬ ▬▬ ▬▬▬ ▬▬ ▬ ▬▬▬ ▬▬▬▬ ▬▬ ▬ ▬▬▬ ▬▬ ▬▬ ▬▬▬ ▬ ▬▬▬▬ ▬▬ ▬▬▬ ▬▬ ▬ ▬▬▬ ▬▬▬▬ ▬▬ ▬ ▬▬▬ ▬▬ ▬▬ ▬▬▬ ▬ ▬▬▬▬ ▬▬ ▬▬▬ ▬▬ ▬ ▬▬▬ ▬▬▬▬ ▬▬ ▬ ▬▬▬ ▬▬ ▬▬ ▬▬▬ ▬ ▬▬▬▬ ▬▬ ▬▬▬ ▬▬ ▬ ▬▬▬ ▬▬▬▬ ▬▬ ▬ ▬▬▬ ▬▬ ▬▬ ▬▬▬ ▬ ▬▬▬▬ ▬▬ ▬▬▬ ▬▬ ▬ ▬▬▬ ▬▬▬▬ ▬▬ ▬ ▬▬▬ ▬▬ ▬▬ ▬▬▬ ▬ ▬▬▬▬ ▬▬ ▬▬▬ ▬▬ ▬ ▬▬▬ ▬▬▬▬ ▬▬ ▬ ▬▬▬ ▬▬ ▬▬ ▬▬▬ ▬ ▬▬▬▬ ▬▬ ▬▬▬ ▬▬ ▬ ▬▬▬ ▬▬▬▬ ▬▬ ▬ ▬▬▬ ▬▬ ▬▬ ▬▬▬ ▬ ▬▬▬▬ ▬▬ ▬▬▬ ▬▬ ▬ ▬▬▬ ▬▬▬▬ ▬▬ ▬ ▬▬▬ ▬▬ ▬▬ ▬▬▬ ▬ ▬▬▬▬ ▬▬ ▬▬▬ ▬▬ ▬ ▬▬▬ ▬▬▬▬ ▬▬ ▬ ▬▬▬ ▬▬ ▬▬ ▬▬▬ ▬ ▬▬▬▬ ▬▬ ▬▬▬ ▬▬ ▬ ▬▬▬ ▬▬▬▬ ▬▬ ▬ ▬▬▬ ▬▬ ▬▬ ▬▬▬ ▬ ▬▬▬▬ ▬▬ ▬▬▬ ▬▬ ▬ ▬▬▬ ▬▬▬▬ ▬▬ ▬ ▬▬▬ ▬▬ ▬▬ ▬▬▬ ▬ ▬▬▬▬ ▬▬ ▬▬▬ ▬▬ ▬ ▬▬▬ ▬▬▬▬ ▬▬ ▬ ▬▬▬ ▬▬ ▬▬ ▬▬▬ ▬ ▬▬▬▬ ▬▬ ▬▬▬ ▬▬ ▬ ▬▬▬ ▬▬▬▬ ▬▬ ▬ ▬▬▬ ▬▬
तनावमुक्त कार्यस्थल की दिशा में पहल
नूंह के दफ्तरों में 'वाई-ब्रेक' की शुरुआत
▬▬ ▬▬▬ ▬ ▬▬▬▬ ▬▬ ▬▬▬ ▬▬ ▬ ▬▬▬ ▬▬▬▬ ▬▬ ▬ ▬▬▬ ▬▬ ▬▬ ▬▬▬ ▬ ▬▬▬▬ ▬▬ ▬▬▬ ▬▬ ▬ ▬▬▬ ▬▬▬▬ ▬▬ ▬ ▬▬▬ ▬▬ ▬▬ ▬▬▬ ▬ ▬▬▬▬ ▬▬ ▬▬▬ ▬▬ ▬ ▬▬▬ ▬▬▬▬ ▬▬ ▬ ▬▬▬ ▬▬ ▬▬ ▬▬▬ ▬ ▬▬▬▬ ▬▬ ▬▬▬ ▬▬ ▬ ▬▬▬ ▬▬▬▬ ▬▬ ▬ ▬▬▬ ▬▬ ▬▬ ▬▬▬ ▬ ▬▬▬▬ ▬▬ ▬▬▬ ▬▬ ▬ ▬▬▬ ▬▬▬▬ ▬▬ ▬ ▬▬▬ ▬▬ ▬▬ ▬▬▬ ▬ ▬▬▬▬ ▬▬ ▬▬▬ ▬▬ ▬ ▬▬▬ ▬▬▬▬ ▬▬ ▬ ▬▬▬ ▬▬ ▬▬ ▬▬▬ ▬ ▬▬▬▬ ▬▬ ▬▬▬ ▬▬ ▬ ▬▬▬ ▬▬▬▬ ▬▬ ▬ ▬▬▬ ▬▬ ▬▬ ▬▬▬ ▬ ▬▬▬▬ ▬▬ ▬▬▬ ▬▬ ▬ ▬▬▬ ▬▬▬▬ ▬▬ ▬ ▬▬▬ ▬▬ ▬▬ ▬▬▬ ▬ ▬▬▬▬ ▬▬ ▬▬▬ ▬▬ ▬ ▬▬▬ ▬▬▬▬ ▬▬ ▬ ▬▬▬ ▬▬ ▬▬ ▬▬▬ ▬ ▬▬▬▬ ▬▬ ▬▬▬ ▬▬ ▬ ▬▬▬ ▬▬▬▬ ▬▬ ▬ ▬▬▬ ▬▬ ▬▬ ▬▬▬ ▬ ▬▬▬▬ ▬▬ ▬▬▬ ▬▬ ▬ ▬▬▬ ▬▬▬▬ ▬▬ ▬ ▬▬▬ ▬▬ ▬▬ ▬▬▬ ▬ ▬▬▬▬ ▬▬ ▬▬▬ ▬▬ ▬ ▬▬▬ ▬▬▬▬ ▬▬ ▬ ▬▬▬ ▬▬ ▬▬ ▬▬▬ ▬ ▬▬▬▬ ▬▬ ▬▬▬ ▬▬ ▬ ▬▬▬ ▬▬▬▬ ▬▬ ▬ ▬▬▬ ▬▬ ▬▬ ▬▬▬ ▬ ▬▬▬▬ ▬▬ ▬▬▬ ▬▬ ▬ ▬▬▬ ▬▬▬▬ ▬▬ ▬ ▬▬▬ ▬▬ ▬▬ ▬▬▬ ▬ ▬▬▬▬ ▬▬ ▬▬▬ ▬▬ ▬ ▬▬▬ ▬▬▬▬ ▬▬ ▬ ▬▬▬ ▬▬ ▬▬ ▬▬▬ ▬ ▬▬▬▬ ▬▬ ▬▬▬ ▬▬ ▬ ▬▬▬ ▬▬▬▬ ▬▬ ▬ ▬▬▬ ▬▬ ▬▬ ▬▬▬ ▬ ▬▬▬▬ ▬▬ ▬▬▬ ▬▬ ▬ ▬▬▬ ▬▬▬▬ ▬▬ ▬ ▬▬▬ ▬▬ ▬▬ ▬▬▬ ▬ ▬▬▬▬ ▬▬ ▬▬▬ ▬▬ ▬ ▬▬▬ ▬▬▬▬ ▬▬ ▬ ▬▬▬ ▬▬ ▬▬ ▬▬▬ ▬ ▬▬▬▬ ▬▬ ▬▬▬ ▬▬ ▬ ▬▬▬ ▬▬▬▬ ▬▬ ▬ ▬▬▬ ▬▬ ▬▬ ▬▬▬ ▬ ▬▬▬▬ ▬▬ ▬▬▬ ▬▬ ▬ ▬▬▬ ▬▬▬▬ ▬▬ ▬ ▬▬▬ ▬▬ ▬▬ ▬▬▬ ▬ ▬▬▬▬ ▬▬ ▬▬▬ ▬▬ ▬ ▬▬▬ ▬▬▬▬ ▬▬ ▬ ▬▬▬ ▬▬ ▬▬ ▬▬▬ ▬ ▬▬▬▬ ▬▬ ▬▬▬ ▬▬ ▬ ▬▬▬ ▬▬▬▬ ▬▬ ▬ ▬▬▬ ▬▬ ▬▬ ▬▬▬ ▬ ▬▬▬▬ ▬▬ ▬▬▬ ▬▬ ▬ ▬▬▬ ▬▬▬▬ ▬▬ ▬ ▬▬▬ ▬▬ ▬▬ ▬▬▬ ▬ ▬▬▬▬ ▬▬ ▬▬▬ ▬▬ ▬ ▬▬▬ ▬▬▬▬ ▬▬ ▬ ▬▬▬ ▬▬ ▬▬ ▬▬▬ ▬ ▬▬▬▬ ▬▬ ▬▬▬ ▬▬ ▬ ▬▬▬ ▬▬▬▬ ▬▬ ▬ ▬▬▬ ▬▬ ▬▬ ▬▬▬ ▬ ▬▬▬▬ ▬▬ ▬▬▬ ▬▬ ▬ ▬▬▬ ▬▬▬▬ ▬▬ ▬ ▬▬▬ ▬▬ ▬▬ ▬▬▬ ▬ ▬▬▬▬ ▬▬ ▬▬▬ ▬▬ ▬ ▬▬▬ ▬▬▬▬ ▬▬ ▬ ▬▬▬ ▬▬ ▬▬ ▬▬▬ ▬ ▬▬▬▬ ▬▬ ▬▬▬ ▬▬ ▬ ▬▬▬ ▬▬▬▬ ▬▬ ▬ ▬▬▬ ▬▬ ▬▬ ▬▬▬ ▬ ▬▬▬▬ ▬▬ ▬▬▬ ▬▬ ▬ ▬▬▬ ▬▬▬▬ ▬▬ ▬ ▬▬▬ ▬▬ ▬▬ ▬▬▬ ▬ ▬▬▬▬ ▬▬ ▬▬▬ ▬▬ ▬ ▬▬▬ ▬▬▬▬ ▬▬ ▬ ▬▬▬ ▬▬ ▬▬ ▬▬▬ ▬ ▬▬▬▬ ▬▬ ▬▬▬ ▬▬ ▬ ▬▬▬ ▬▬▬▬ ▬▬ ▬ ▬▬▬ ▬▬ ▬▬ ▬▬▬ ▬ ▬▬▬▬ ▬▬ ▬▬▬ ▬▬ ▬ ▬▬▬ ▬▬▬▬ ▬▬ ▬ ▬▬▬ ▬▬ ▬▬ ▬▬▬ ▬ ▬▬▬▬ ▬▬ ▬▬▬ ▬▬ ▬ ▬▬▬ ▬▬▬▬ ▬▬ ▬ ▬▬▬ ▬▬ ▬▬ ▬▬▬ ▬ ▬▬▬▬ ▬▬ ▬▬▬ ▬▬ ▬ ▬▬▬ ▬▬▬▬ ▬▬ ▬ ▬▬▬ ▬▬ ▬▬ ▬▬▬ ▬ ▬▬▬▬ ▬▬ ▬▬▬ ▬▬ ▬ ▬▬▬ ▬▬▬▬ ▬▬ ▬ ▬▬▬ ▬▬ ▬▬ ▬▬▬ ▬ ▬▬▬▬ ▬▬ ▬▬▬ ▬▬ ▬ ▬▬▬ ▬▬▬▬ ▬▬ ▬ ▬▬▬ ▬▬ ▬▬ ▬▬▬ ▬ ▬▬▬▬ ▬▬ ▬▬▬ ▬▬ ▬ ▬▬▬ ▬▬▬▬ ▬▬ ▬ ▬▬▬ ▬▬ ▬▬ ▬▬▬ ▬ ▬▬▬▬ ▬▬ ▬▬▬ ▬▬ ▬ ▬▬▬ ▬▬▬▬ ▬▬ ▬ ▬▬▬ ▬▬ ▬▬ ▬▬▬ ▬ ▬▬▬▬ ▬▬ ▬▬▬ ▬▬ ▬ ▬▬▬ ▬▬▬▬ ▬▬ ▬ ▬▬▬ ▬▬ ▬▬ ▬▬▬ ▬ ▬▬▬▬ ▬▬ ▬▬▬ ▬▬ ▬ ▬▬▬ ▬▬▬▬ ▬▬ ▬ ▬▬▬ ▬▬ ▬▬ ▬▬▬ ▬ ▬▬▬▬ ▬▬ ▬▬▬ ▬▬ ▬ ▬▬▬ ▬▬▬▬ ▬▬ ▬ ▬▬▬ ▬▬ ▬▬ ▬▬▬ ▬ ▬▬▬▬ ▬▬ ▬▬▬ ▬▬ ▬ ▬▬▬ ▬▬▬▬ ▬▬ ▬ ▬▬▬ ▬▬ ▬▬ ▬▬▬ ▬ ▬▬▬▬ ▬▬ ▬▬▬ ▬▬ ▬ ▬▬▬ ▬▬▬▬ ▬▬ ▬ ▬▬▬ ▬▬ ▬▬ ▬▬▬ ▬ ▬▬▬▬ ▬▬ ▬▬▬ ▬▬ ▬ ▬▬▬ ▬▬▬▬ ▬▬ ▬ ▬▬▬ ▬▬ ▬▬ ▬▬▬ ▬ ▬▬▬▬ ▬▬ ▬▬▬ ▬▬ ▬ ▬▬▬ ▬▬▬▬ ▬▬ ▬ ▬▬▬ ▬▬ ▬▬ ▬▬▬ ▬ ▬▬▬▬ ▬▬ ▬▬▬ ▬▬ ▬ ▬▬▬ ▬▬▬▬ ▬▬ ▬ ▬▬▬ ▬▬ ▬▬ ▬▬▬ ▬ ▬▬▬▬ ▬▬ ▬▬▬ ▬▬ ▬ ▬▬▬ ▬▬▬▬ ▬▬ ▬ ▬▬▬ ▬▬ ▬▬ ▬▬▬ ▬ ▬▬▬▬ ▬▬ ▬▬▬ ▬▬ ▬ ▬▬▬ ▬▬▬▬ ▬▬ ▬ ▬▬▬ ▬▬ ▬▬ ▬▬▬ ▬ ▬▬▬▬ ▬▬ ▬▬▬ ▬▬ ▬ ▬▬▬ ▬▬▬▬ ▬▬ ▬ ▬▬▬ ▬▬ ▬▬ ▬▬▬ ▬ ▬▬▬▬ ▬▬ ▬▬▬ ▬▬ ▬ ▬▬▬ ▬▬▬▬ ▬▬ ▬ ▬▬▬ ▬▬ ▬▬ ▬▬▬ ▬ ▬▬▬▬ ▬▬ ▬▬▬ ▬▬ ▬ ▬▬▬ ▬▬▬▬ ▬▬ ▬ ▬▬▬ ▬▬ ▬▬ ▬▬▬ ▬ ▬▬▬▬ ▬▬ ▬▬▬ ▬▬ ▬ ▬▬▬ ▬▬▬▬ ▬▬ ▬ ▬▬▬ ▬▬ ▬▬ ▬▬▬ ▬ ▬▬▬▬ ▬▬ ▬▬▬ ▬▬ ▬ ▬▬▬ ▬▬▬▬ ▬▬ ▬ ▬▬▬ ▬▬ ▬▬ ▬▬▬ ▬ ▬▬▬▬ ▬▬ ▬▬▬ ▬▬ ▬ ▬▬▬ ▬▬▬▬ ▬▬ ▬ ▬▬▬ ▬▬ ▬▬ ▬▬▬ ▬ ▬▬▬▬ ▬▬ ▬▬▬ ▬▬ ▬ ▬▬▬ ▬▬▬▬ ▬▬ ▬ ▬▬▬ ▬▬ ▬▬ ▬▬▬ ▬ ▬▬▬▬ ▬▬ ▬▬▬ ▬▬ ▬ ▬▬▬ ▬▬▬▬ ▬▬ ▬ ▬▬▬ ▬▬ ▬▬ ▬▬▬ ▬ ▬▬▬▬ ▬▬ ▬▬▬ ▬▬ ▬ ▬▬▬ ▬▬▬▬ ▬▬ ▬ ▬▬▬ ▬▬ ▬▬ ▬▬▬ ▬ ▬▬▬▬ ▬▬ ▬▬▬ ▬▬ ▬ ▬▬▬ ▬▬▬▬ ▬▬ ▬ ▬▬▬ ▬▬ ▬▬ ▬▬▬ ▬ ▬▬▬▬ ▬▬ ▬▬▬ ▬▬ ▬ ▬▬▬ ▬▬▬▬ ▬▬ ▬ ▬▬▬ ▬▬ ▬▬ ▬▬▬ ▬ ▬▬▬▬ ▬▬ ▬▬▬ ▬▬ ▬ ▬▬▬ ▬▬▬▬ ▬▬ ▬ ▬▬▬ ▬▬
▬▬ ▬▬▬ ▬ ▬▬▬▬ ▬▬ ▬▬▬ ▬▬ ▬ ▬▬▬ ▬▬▬▬ ▬▬ ▬ ▬▬▬ ▬▬ ▬▬ ▬▬▬ ▬ ▬▬▬▬ ▬▬ ▬▬▬ ▬▬ ▬ ▬▬▬ ▬▬▬▬ ▬▬ ▬ ▬▬▬ ▬▬ ▬▬ ▬▬▬ ▬ ▬▬▬▬ ▬▬ ▬▬▬ ▬▬ ▬ ▬▬▬ ▬▬▬▬ ▬▬ ▬ ▬▬▬ ▬▬ ▬▬ ▬▬▬ ▬ ▬▬▬▬ ▬▬ ▬▬▬ ▬▬ ▬ ▬▬▬ ▬▬▬▬ ▬▬ ▬ ▬▬▬ ▬▬ ▬▬ ▬▬▬ ▬ ▬▬▬▬ ▬▬ ▬▬▬ ▬▬ ▬ ▬▬▬ ▬▬▬▬ ▬▬ ▬ ▬▬▬ ▬▬ ▬▬ ▬▬▬ ▬ ▬▬▬▬ ▬▬ ▬▬▬ ▬▬ ▬ ▬▬▬ ▬▬▬▬ ▬▬ ▬ ▬▬▬ ▬▬ ▬▬ ▬▬▬ ▬ ▬▬▬▬ ▬▬ ▬▬▬ ▬▬ ▬ ▬▬▬ ▬▬▬▬ ▬▬ ▬ ▬▬▬ ▬▬ ▬▬ ▬▬▬ ▬ ▬▬▬▬ ▬▬ ▬▬▬ ▬▬ ▬ ▬▬▬ ▬▬▬▬ ▬▬ ▬ ▬▬▬ ▬▬ ▬▬ ▬▬▬ ▬ ▬▬▬▬ ▬▬ ▬▬▬ ▬▬ ▬ ▬▬▬ ▬▬▬▬ ▬▬ ▬ ▬▬▬ ▬▬ ▬▬ ▬▬▬ ▬ ▬▬▬▬ ▬▬ ▬▬▬ ▬▬ ▬ ▬▬▬ ▬▬▬▬ ▬▬ ▬ ▬▬▬ ▬▬ ▬▬ ▬▬▬ ▬ ▬▬▬▬ ▬▬ ▬▬▬ ▬▬ ▬ ▬▬▬ ▬▬▬▬ ▬▬ ▬ ▬▬▬ ▬▬ ▬▬ ▬▬▬ ▬ ▬▬▬▬ ▬▬ ▬▬▬ ▬▬ ▬ ▬▬▬ ▬▬▬▬ ▬▬ ▬ ▬▬▬ ▬▬ ▬▬ ▬▬▬ ▬ ▬▬▬▬ ▬▬ ▬▬▬ ▬▬ ▬ ▬▬▬ ▬▬▬▬ ▬▬ ▬ ▬▬▬ ▬▬ ▬▬ ▬▬▬ ▬ ▬▬▬▬ ▬▬ ▬▬▬ ▬▬ ▬ ▬▬▬ ▬▬▬▬ ▬▬ ▬ ▬▬▬ ▬▬ ▬▬ ▬▬▬ ▬ ▬▬▬▬ ▬▬ ▬▬▬ ▬▬ ▬ ▬▬▬ ▬▬▬▬ ▬▬ ▬ ▬▬▬ ▬▬ ▬▬ ▬▬▬ ▬ ▬▬▬▬ ▬▬ ▬▬▬ ▬▬ ▬ ▬▬▬ ▬▬▬▬ ▬▬ ▬ ▬▬▬ ▬▬ ▬▬ ▬▬▬ ▬ ▬▬▬▬ ▬▬ ▬▬▬ ▬▬ ▬ ▬▬▬ ▬▬▬▬ ▬▬ ▬ ▬▬▬ ▬▬ ▬▬ ▬▬▬ ▬ ▬▬▬▬ ▬▬ ▬▬▬ ▬▬ ▬ ▬▬▬ ▬▬▬▬ ▬▬ ▬ ▬▬▬ ▬▬ ▬▬ ▬▬▬ ▬ ▬▬▬▬ ▬▬ ▬▬▬ ▬▬ ▬ ▬▬▬ ▬▬▬▬ ▬▬ ▬ ▬▬▬ ▬▬ ▬▬ ▬▬▬ ▬ ▬▬▬▬ ▬▬ ▬▬▬ ▬▬ ▬ ▬▬▬ ▬▬▬▬ ▬▬ ▬ ▬▬▬ ▬▬ ▬▬ ▬▬▬ ▬ ▬▬▬▬ ▬▬ ▬▬▬ ▬▬ ▬ ▬▬▬ ▬▬▬▬ ▬▬ ▬ ▬▬▬ ▬▬ ▬▬ ▬▬▬ ▬ ▬▬▬▬ ▬▬ ▬▬▬ ▬▬ ▬ ▬▬▬ ▬▬▬▬ ▬▬ ▬ ▬▬▬ ▬▬ ▬▬ ▬▬▬ ▬ ▬▬▬▬ ▬▬ ▬▬▬ ▬▬ ▬ ▬▬▬ ▬▬▬▬ ▬▬ ▬ ▬▬▬ ▬▬ ▬▬ ▬▬▬ ▬ ▬▬▬▬ ▬▬ ▬▬▬ ▬▬ ▬ ▬▬▬ ▬▬▬▬ ▬▬ ▬ ▬▬▬ ▬▬ ▬▬ ▬▬▬ ▬ ▬▬▬▬ ▬▬ ▬▬▬ ▬▬ ▬ ▬▬▬ ▬▬▬▬ ▬▬ ▬ ▬▬▬ ▬▬ ▬▬ ▬▬▬ ▬ ▬▬▬▬ ▬▬ ▬▬▬ ▬▬ ▬ ▬▬▬ ▬▬▬▬ ▬▬ ▬ ▬▬▬ ▬▬ ▬▬ ▬▬▬ ▬ ▬▬▬▬ ▬▬ ▬▬▬ ▬▬ ▬ ▬▬▬ ▬▬▬▬ ▬▬ ▬ ▬▬▬ ▬▬ ▬▬ ▬▬▬ ▬ ▬▬▬▬ ▬▬ ▬▬▬ ▬▬ ▬ ▬▬▬ ▬▬▬▬ ▬▬ ▬ ▬▬▬ ▬▬ ▬▬ ▬▬▬ ▬ ▬▬▬▬ ▬▬ ▬▬▬ ▬▬ ▬ ▬▬▬ ▬▬▬▬ ▬▬ ▬ ▬▬▬ ▬▬ ▬▬ ▬▬▬ ▬ ▬▬▬▬ ▬▬ ▬▬▬ ▬▬ ▬ ▬▬▬ ▬▬▬▬ ▬▬ ▬ ▬▬▬ ▬▬ ▬▬ ▬▬▬ ▬ ▬▬▬▬ ▬▬ ▬▬▬ ▬▬ ▬ ▬▬▬ ▬▬▬▬ ▬▬ ▬ ▬▬▬ ▬▬ ▬▬ ▬▬▬ ▬ ▬▬▬▬ ▬▬ ▬▬▬ ▬▬ ▬ ▬▬▬ ▬▬▬▬ ▬▬ ▬ ▬▬▬ ▬▬ ▬▬ ▬▬▬ ▬ ▬▬▬▬ ▬▬ ▬▬▬ ▬▬ ▬ ▬▬▬ ▬▬▬▬ ▬▬ ▬ ▬▬▬ ▬▬ ▬▬ ▬▬▬ ▬ ▬▬▬▬ ▬▬ ▬▬▬ ▬▬ ▬ ▬▬▬ ▬▬▬▬ ▬▬ ▬ ▬▬▬ ▬▬ ▬▬ ▬▬▬ ▬ ▬▬▬▬ ▬▬ ▬▬▬ ▬▬ ▬ ▬▬▬ ▬▬▬▬ ▬▬ ▬ ▬▬▬ ▬▬ ▬▬ ▬▬▬ ▬ ▬▬▬▬ ▬▬ ▬▬▬ ▬▬ ▬ ▬▬▬ ▬▬▬▬ ▬▬ ▬ ▬▬▬ ▬▬ ▬▬ ▬▬▬ ▬ ▬▬▬▬ ▬▬ ▬▬▬ ▬▬ ▬ ▬▬▬ ▬▬▬▬ ▬▬ ▬ ▬▬▬ ▬▬ ▬▬ ▬▬▬ ▬ ▬▬▬▬ ▬▬ ▬▬▬ ▬▬ ▬ ▬▬▬ ▬▬▬▬ ▬▬ ▬ ▬▬▬ ▬▬ ▬▬ ▬▬▬ ▬ ▬▬▬▬ ▬▬ ▬▬▬ ▬▬ ▬ ▬▬▬ ▬▬▬▬ ▬▬ ▬ ▬▬▬ ▬▬ ▬▬ ▬▬▬ ▬ ▬▬▬▬ ▬▬ ▬▬▬ ▬▬ ▬ ▬▬▬ ▬▬▬▬ ▬▬ ▬ ▬▬▬ ▬▬ ▬▬ ▬▬▬ ▬ ▬▬▬▬ ▬▬ ▬▬▬ ▬▬ ▬ ▬▬▬ ▬▬▬▬ ▬▬ ▬ ▬▬▬ ▬▬ ▬▬ ▬▬▬ ▬ ▬▬▬▬ ▬▬ ▬▬▬ ▬▬ ▬ ▬▬▬ ▬▬▬▬ ▬▬ ▬ ▬▬▬ ▬▬ ▬▬ ▬▬▬ ▬ ▬▬▬▬ ▬▬ ▬▬▬ ▬▬ ▬ ▬▬▬ ▬▬▬▬ ▬▬ ▬ ▬▬▬ ▬▬ ▬▬ ▬▬▬ ▬ ▬▬▬▬ ▬▬ ▬▬▬ ▬▬ ▬ ▬▬▬ ▬▬▬▬ ▬▬ ▬ ▬▬▬ ▬▬ ▬▬ ▬▬▬ ▬ ▬▬▬▬ ▬▬ ▬▬▬ ▬▬ ▬ ▬▬▬ ▬▬▬▬ ▬▬ ▬ ▬▬▬ ▬▬ ▬▬ ▬▬▬ ▬ ▬▬▬▬ ▬▬ ▬▬▬ ▬▬ ▬ ▬▬▬ ▬▬▬▬ ▬▬ ▬ ▬▬▬ ▬▬ ▬▬ ▬▬▬ ▬ ▬▬▬▬ ▬▬ ▬▬▬ ▬▬ ▬ ▬▬▬ ▬▬▬▬ ▬▬ ▬ ▬▬▬ ▬▬ ▬▬ ▬▬▬ ▬ ▬▬▬▬ ▬▬ ▬▬▬ ▬▬ ▬ ▬▬▬ ▬▬▬▬ ▬▬ ▬ ▬▬▬ ▬▬ ▬▬ ▬▬▬ ▬ ▬▬▬▬ ▬▬ ▬▬▬ ▬▬ ▬ ▬▬▬ ▬▬▬▬ ▬▬ ▬ ▬▬▬ ▬▬ ▬▬ ▬▬▬ ▬ ▬▬▬▬ ▬▬ ▬▬▬ ▬▬ ▬ ▬▬▬ ▬▬▬▬ ▬▬ ▬ ▬▬▬ ▬▬ ▬▬ ▬▬▬ ▬ ▬▬▬▬ ▬▬ ▬▬▬ ▬▬ ▬ ▬▬▬ ▬▬▬▬ ▬▬ ▬ ▬▬▬ ▬▬ ▬▬ ▬▬▬ ▬ ▬▬▬▬ ▬▬ ▬▬▬ ▬▬ ▬ ▬▬▬ ▬▬▬▬ ▬▬ ▬ ▬▬▬ ▬▬ ▬▬ ▬▬▬ ▬ ▬▬▬▬ ▬▬ ▬▬▬ ▬▬ ▬ ▬▬▬ ▬▬▬▬ ▬▬ ▬ ▬▬▬ ▬▬ ▬▬ ▬▬▬ ▬ ▬▬▬▬ ▬▬ ▬▬▬ ▬▬ ▬ ▬▬▬ ▬▬▬▬ ▬▬ ▬ ▬▬▬ ▬▬ ▬▬ ▬▬▬ ▬ ▬▬▬▬ ▬▬ ▬▬▬ ▬▬ ▬ ▬▬▬ ▬▬▬▬ ▬▬ ▬ ▬▬▬ ▬▬ ▬▬ ▬▬▬ ▬ ▬▬▬▬ ▬▬ ▬▬▬ ▬▬ ▬ ▬▬▬ ▬▬▬▬ ▬▬ ▬ ▬▬▬ ▬▬ ▬▬ ▬▬▬ ▬ ▬▬▬▬ ▬▬ ▬▬▬ ▬▬ ▬ ▬▬▬ ▬▬▬▬ ▬▬ ▬ ▬▬▬ ▬▬ ▬▬ ▬▬▬ ▬ ▬▬▬▬ ▬▬ ▬▬▬ ▬▬ ▬ ▬▬▬ ▬▬▬▬ ▬▬ ▬ ▬▬▬ ▬▬ ▬▬ ▬▬▬ ▬ ▬▬▬▬ ▬▬ ▬▬▬ ▬▬ ▬ ▬▬▬ ▬▬▬▬ ▬▬ ▬ ▬▬▬ ▬▬ ▬▬ ▬▬▬ ▬ ▬▬▬▬ ▬▬ ▬▬▬ ▬▬ ▬ ▬▬▬ ▬▬▬▬ ▬▬ ▬ ▬▬▬ ▬▬
▬▬ ▬▬▬ ▬ ▬▬▬▬ ▬▬ ▬▬▬ ▬▬ ▬ ▬▬▬ ▬▬▬▬ ▬▬ ▬ ▬▬▬ ▬▬ ▬▬ ▬▬▬ ▬ ▬▬▬▬ ▬▬ ▬▬▬ ▬▬ ▬ ▬▬▬ ▬▬▬▬ ▬▬ ▬ ▬▬▬ ▬▬ ▬▬ ▬▬▬ ▬ ▬▬▬▬ ▬▬ ▬▬▬ ▬▬ ▬ ▬▬▬ ▬▬▬▬ ▬▬ ▬ ▬▬▬ ▬▬ ▬▬ ▬▬▬ ▬ ▬▬▬▬ ▬▬ ▬▬▬ ▬▬ ▬ ▬▬▬ ▬▬▬▬ ▬▬ ▬ ▬▬▬ ▬▬ ▬▬ ▬▬▬ ▬ ▬▬▬▬ ▬▬ ▬▬▬ ▬▬ ▬ ▬▬▬ ▬▬▬▬ ▬▬ ▬ ▬▬▬ ▬▬ ▬▬ ▬▬▬ ▬ ▬▬▬▬ ▬▬ ▬▬▬ ▬▬ ▬ ▬▬▬ ▬▬▬▬ ▬▬ ▬ ▬▬▬ ▬▬ ▬▬ ▬▬▬ ▬ ▬▬▬▬ ▬▬ ▬▬▬ ▬▬ ▬ ▬▬▬ ▬▬▬▬ ▬▬ ▬ ▬▬▬ ▬▬ ▬▬ ▬▬▬ ▬ ▬▬▬▬ ▬▬ ▬▬▬ ▬▬ ▬ ▬▬▬ ▬▬▬▬ ▬▬ ▬ ▬▬▬ ▬▬ ▬▬ ▬▬▬ ▬ ▬▬▬▬ ▬▬ ▬▬▬ ▬▬ ▬ ▬▬▬ ▬▬▬▬ ▬▬ ▬ ▬▬▬ ▬▬ ▬▬ ▬▬▬ ▬ ▬▬▬▬ ▬▬ ▬▬▬ ▬▬ ▬ ▬▬▬ ▬▬▬▬ ▬▬ ▬ ▬▬▬ ▬▬ ▬▬ ▬▬▬ ▬ ▬▬▬▬ ▬▬ ▬▬▬ ▬▬ ▬ ▬▬▬ ▬▬▬▬ ▬▬ ▬ ▬▬▬ ▬▬ ▬▬ ▬▬▬ ▬ ▬▬▬▬ ▬▬ ▬▬▬ ▬▬ ▬ ▬▬▬ ▬▬▬▬ ▬▬ ▬ ▬▬▬ ▬▬ ▬▬ ▬▬▬ ▬ ▬▬▬▬ ▬▬ ▬▬▬ ▬▬ ▬ ▬▬▬ ▬▬▬▬ ▬▬ ▬ ▬▬▬ ▬▬ ▬▬ ▬▬▬ ▬ ▬▬▬▬ ▬▬ ▬▬▬ ▬▬ ▬ ▬▬▬ ▬▬▬▬ ▬▬ ▬ ▬▬▬ ▬▬ ▬▬ ▬▬▬ ▬ ▬▬▬▬ ▬▬ ▬▬▬ ▬▬ ▬ ▬▬▬ ▬▬▬▬ ▬▬ ▬ ▬▬▬ ▬▬ ▬▬ ▬▬▬ ▬ ▬▬▬▬ ▬▬ ▬▬▬ ▬▬ ▬ ▬▬▬ ▬▬▬▬ ▬▬ ▬ ▬▬▬ ▬▬ ▬▬ ▬▬▬ ▬ ▬▬▬▬ ▬▬ ▬▬▬ ▬▬ ▬ ▬▬▬ ▬▬▬▬ ▬▬ ▬ ▬▬▬ ▬▬ ▬▬ ▬▬▬ ▬ ▬▬▬▬ ▬▬ ▬▬▬ ▬▬ ▬ ▬▬▬ ▬▬▬▬ ▬▬ ▬ ▬▬▬ ▬▬ ▬▬ ▬▬▬ ▬ ▬▬▬▬ ▬▬ ▬▬▬ ▬▬ ▬ ▬▬▬ ▬▬▬▬ ▬▬ ▬ ▬▬▬ ▬▬ ▬▬ ▬▬▬ ▬ ▬▬▬▬ ▬▬ ▬▬▬ ▬▬ ▬ ▬▬▬ ▬▬▬▬ ▬▬ ▬ ▬▬▬ ▬▬ ▬▬ ▬▬▬ ▬ ▬▬▬▬ ▬▬ ▬▬▬ ▬▬ ▬ ▬▬▬ ▬▬▬▬ ▬▬ ▬ ▬▬▬ ▬▬ ▬▬ ▬▬▬ ▬ ▬▬▬▬ ▬▬ ▬▬▬ ▬▬ ▬ ▬▬▬ ▬▬▬▬ ▬▬ ▬ ▬▬▬ ▬▬ ▬▬ ▬▬▬ ▬ ▬▬▬▬ ▬▬ ▬▬▬ ▬▬ ▬ ▬▬▬ ▬▬▬▬ ▬▬ ▬ ▬▬▬ ▬▬ ▬▬ ▬▬▬ ▬ ▬▬▬▬ ▬▬ ▬▬▬ ▬▬ ▬ ▬▬▬ ▬▬▬▬ ▬▬ ▬ ▬▬▬ ▬▬ ▬▬ ▬▬▬ ▬ ▬▬▬▬ ▬▬ ▬▬▬ ▬▬ ▬ ▬▬▬ ▬▬▬▬ ▬▬ ▬ ▬▬▬ ▬▬ ▬▬ ▬▬▬ ▬ ▬▬▬▬ ▬▬ ▬▬▬ ▬▬ ▬ ▬▬▬ ▬▬▬▬ ▬▬ ▬ ▬▬▬ ▬▬ ▬▬ ▬▬▬ ▬ ▬▬▬▬ ▬▬ ▬▬▬ ▬▬ ▬ ▬▬▬ ▬▬▬▬ ▬▬ ▬ ▬▬▬ ▬▬ ▬▬ ▬▬▬ ▬ ▬▬▬▬ ▬▬ ▬▬▬ ▬▬ ▬ ▬▬▬ ▬▬▬▬ ▬▬ ▬ ▬▬▬ ▬▬ ▬▬ ▬▬▬ ▬ ▬▬▬▬ ▬▬ ▬▬▬ ▬▬ ▬ ▬▬▬ ▬▬▬▬ ▬▬ ▬ ▬▬▬ ▬▬ ▬▬ ▬▬▬ ▬ ▬▬▬▬ ▬▬ ▬▬▬ ▬▬ ▬ ▬▬▬ ▬▬▬▬ ▬▬ ▬ ▬▬▬ ▬▬ ▬▬ ▬▬▬ ▬ ▬▬▬▬ ▬▬ ▬▬▬ ▬▬ ▬ ▬▬▬ ▬▬▬▬ ▬▬ ▬ ▬▬▬ ▬▬ ▬▬ ▬▬▬ ▬ ▬▬▬▬ ▬▬ ▬▬▬ ▬▬ ▬ ▬▬▬ ▬▬▬▬ ▬▬ ▬ ▬▬▬ ▬▬ ▬▬ ▬▬▬ ▬ ▬▬▬▬ ▬▬ ▬▬▬ ▬▬ ▬ ▬▬▬ ▬▬▬▬ ▬▬ ▬ ▬▬▬ ▬▬ ▬▬ ▬▬▬ ▬ ▬▬▬▬ ▬▬ ▬▬▬ ▬▬ ▬ ▬▬▬ ▬▬▬▬ ▬▬ ▬ ▬▬▬ ▬▬ ▬▬ ▬▬▬ ▬ ▬▬▬▬ ▬▬ ▬▬▬ ▬▬ ▬ ▬▬▬ ▬▬▬▬ ▬▬ ▬ ▬▬▬ ▬▬ ▬▬ ▬▬▬ ▬ ▬▬▬▬ ▬▬ ▬▬▬ ▬▬ ▬ ▬▬▬ ▬▬▬▬ ▬▬ ▬ ▬▬▬ ▬▬ ▬▬ ▬▬▬ ▬ ▬▬▬▬ ▬▬ ▬▬▬ ▬▬ ▬ ▬▬▬ ▬▬▬▬ ▬▬ ▬ ▬▬▬ ▬▬ ▬▬ ▬▬▬ ▬ ▬▬▬▬ ▬▬ ▬▬▬ ▬▬ ▬ ▬▬▬ ▬▬▬▬ ▬▬ ▬ ▬▬▬ ▬▬ ▬▬ ▬▬▬ ▬ ▬▬▬▬ ▬▬ ▬▬▬ ▬▬ ▬ ▬▬▬ ▬▬▬▬ ▬▬ ▬ ▬▬▬ ▬▬ ▬▬ ▬▬▬ ▬ ▬▬▬▬ ▬▬ ▬▬▬ ▬▬ ▬ ▬▬▬ ▬▬▬▬ ▬▬ ▬ ▬▬▬ ▬▬ ▬▬ ▬▬▬ ▬ ▬▬▬▬ ▬▬ ▬▬▬ ▬▬ ▬ ▬▬▬ ▬▬▬▬ ▬▬ ▬ ▬▬▬ ▬▬ ▬▬ ▬▬▬ ▬ ▬▬▬▬ ▬▬ ▬▬▬ ▬▬ ▬ ▬▬▬ ▬▬▬▬ ▬▬ ▬ ▬▬▬ ▬▬ ▬▬ ▬▬▬ ▬ ▬▬▬▬ ▬▬ ▬▬▬ ▬▬ ▬ ▬▬▬ ▬▬▬▬ ▬▬ ▬ ▬▬▬ ▬▬ ▬▬ ▬▬▬ ▬ ▬▬▬▬ ▬▬ ▬▬▬ ▬▬ ▬ ▬▬▬ ▬▬▬▬ ▬▬ ▬ ▬▬▬ ▬▬ ▬▬ ▬▬▬ ▬ ▬▬▬▬ ▬▬ ▬▬▬ ▬▬ ▬ ▬▬▬ ▬▬▬▬ ▬▬ ▬ ▬▬▬ ▬▬ ▬▬ ▬▬▬ ▬ ▬▬▬▬ ▬▬ ▬▬▬ ▬▬ ▬ ▬▬▬ ▬▬▬▬ ▬▬ ▬ ▬▬▬ ▬▬ ▬▬ ▬▬▬ ▬ ▬▬▬▬ ▬▬ ▬▬▬ ▬▬ ▬ ▬▬▬ ▬▬▬▬ ▬▬ ▬ ▬▬▬ ▬▬ ▬▬ ▬▬▬ ▬ ▬▬▬▬ ▬▬ ▬▬▬ ▬▬ ▬ ▬▬▬ ▬▬▬▬ ▬▬ ▬ ▬▬▬ ▬▬ ▬▬ ▬▬▬ ▬ ▬▬▬▬ ▬▬ ▬▬▬ ▬▬ ▬ ▬▬▬ ▬▬▬▬ ▬▬ ▬ ▬▬▬ ▬▬ ▬▬ ▬▬▬ ▬ ▬▬▬▬ ▬▬ ▬▬▬ ▬▬ ▬ ▬▬▬ ▬▬▬▬ ▬▬ ▬ ▬▬▬ ▬▬ ▬▬ ▬▬▬ ▬ ▬▬▬▬ ▬▬ ▬▬▬ ▬▬ ▬ ▬▬▬ ▬▬▬▬ ▬▬ ▬ ▬▬▬ ▬▬ ▬▬ ▬▬▬ ▬ ▬▬▬▬ ▬▬ ▬▬▬ ▬▬ ▬ ▬▬▬ ▬▬▬▬ ▬▬ ▬ ▬▬▬ ▬▬ ▬▬ ▬▬▬ ▬ ▬▬▬▬ ▬▬ ▬▬▬ ▬▬ ▬ ▬▬▬ ▬▬▬▬ ▬▬ ▬ ▬▬▬ ▬▬ ▬▬ ▬▬▬ ▬ ▬▬▬▬ ▬▬ ▬▬▬ ▬▬ ▬ ▬▬▬ ▬▬▬▬ ▬▬ ▬ ▬▬▬ ▬▬ ▬▬ ▬▬▬ ▬ ▬▬▬▬ ▬▬ ▬▬▬ ▬▬ ▬ ▬▬▬ ▬▬▬▬ ▬▬ ▬ ▬▬▬ ▬▬ ▬▬ ▬▬▬ ▬ ▬▬▬▬ ▬▬ ▬▬▬ ▬▬ ▬ ▬▬▬ ▬▬▬▬ ▬▬ ▬ ▬▬▬ ▬▬ ▬▬ ▬▬▬ ▬ ▬▬▬▬ ▬▬ ▬▬▬ ▬▬ ▬ ▬▬▬ ▬▬▬▬ ▬▬ ▬ ▬▬▬ ▬▬ ▬▬ ▬▬▬ ▬ ▬▬▬▬ ▬▬ ▬▬▬ ▬▬ ▬ ▬▬▬ ▬▬▬▬ ▬▬ ▬ ▬▬▬ ▬▬ ▬▬ ▬▬▬ ▬ ▬▬▬▬ ▬▬ ▬▬▬ ▬▬ ▬ ▬▬▬ ▬▬▬▬ ▬▬ ▬ ▬▬▬ ▬▬ ▬▬ ▬▬▬ ▬ ▬▬▬▬ ▬▬ ▬▬▬ ▬▬ ▬ ▬▬▬ ▬▬▬▬ ▬▬ ▬ ▬▬▬ ▬▬
▬▬ ▬▬▬ ▬ ▬▬▬▬ ▬▬ ▬▬▬ ▬▬ ▬ ▬▬▬ ▬▬▬▬ ▬▬ ▬ ▬▬▬ ▬▬ ▬▬ ▬▬▬ ▬ ▬▬▬▬ ▬▬ ▬▬▬ ▬▬ ▬ ▬▬▬ ▬▬▬▬ ▬▬ ▬ ▬▬▬ ▬▬ ▬▬ ▬▬▬ ▬ ▬▬▬▬ ▬▬ ▬▬▬ ▬▬ ▬ ▬▬▬ ▬▬▬▬ ▬▬ ▬ ▬▬▬ ▬▬ ▬▬ ▬▬▬ ▬ ▬▬▬▬ ▬▬ ▬▬▬ ▬▬ ▬ ▬▬▬ ▬▬▬▬ ▬▬ ▬ ▬▬▬ ▬▬ ▬▬ ▬▬▬ ▬ ▬▬▬▬ ▬▬ ▬▬▬ ▬▬ ▬ ▬▬▬ ▬▬▬▬ ▬▬ ▬ ▬▬▬ ▬▬ ▬▬ ▬▬▬ ▬ ▬▬▬▬ ▬▬ ▬▬▬ ▬▬ ▬ ▬▬▬ ▬▬▬▬ ▬▬ ▬ ▬▬▬ ▬▬ ▬▬ ▬▬▬ ▬ ▬▬▬▬ ▬▬ ▬▬▬ ▬▬ ▬ ▬▬▬ ▬▬▬▬ ▬▬ ▬ ▬▬▬ ▬▬ ▬▬ ▬▬▬ ▬ ▬▬▬▬ ▬▬ ▬▬▬ ▬▬ ▬ ▬▬▬ ▬▬▬▬ ▬▬ ▬ ▬▬▬ ▬▬ ▬▬ ▬▬▬ ▬ ▬▬▬▬ ▬▬ ▬▬▬ ▬▬ ▬ ▬▬▬ ▬▬▬▬ ▬▬ ▬ ▬▬▬ ▬▬ ▬▬ ▬▬▬ ▬ ▬▬▬▬ ▬▬ ▬▬▬ ▬▬ ▬ ▬▬▬ ▬▬▬▬ ▬▬ ▬ ▬▬▬ ▬▬ ▬▬ ▬▬▬ ▬ ▬▬▬▬ ▬▬ ▬▬▬ ▬▬ ▬ ▬▬▬ ▬▬▬▬ ▬▬ ▬ ▬▬▬ ▬▬ ▬▬ ▬▬▬ ▬ ▬▬▬▬ ▬▬ ▬▬▬ ▬▬ ▬ ▬▬▬ ▬▬▬▬ ▬▬ ▬ ▬▬▬ ▬▬ ▬▬ ▬▬▬ ▬ ▬▬▬▬ ▬▬ ▬▬▬ ▬▬ ▬ ▬▬▬ ▬▬▬▬ ▬▬ ▬ ▬▬▬ ▬▬ ▬▬ ▬▬▬ ▬ ▬▬▬▬ ▬▬ ▬▬▬ ▬▬ ▬ ▬▬▬ ▬▬▬▬ ▬▬ ▬ ▬▬▬ ▬▬ ▬▬ ▬▬▬ ▬ ▬▬▬▬ ▬▬ ▬▬▬ ▬▬ ▬ ▬▬▬ ▬▬▬▬ ▬▬ ▬ ▬▬▬ ▬▬ ▬▬ ▬▬▬ ▬ ▬▬▬▬ ▬▬ ▬▬▬ ▬▬ ▬ ▬▬▬ ▬▬▬▬ ▬▬ ▬ ▬▬▬ ▬▬ ▬▬ ▬▬▬ ▬ ▬▬▬▬ ▬▬ ▬▬▬ ▬▬ ▬ ▬▬▬ ▬▬▬▬ ▬▬ ▬ ▬▬▬ ▬▬ ▬▬ ▬▬▬ ▬ ▬▬▬▬ ▬▬ ▬▬▬ ▬▬ ▬ ▬▬▬ ▬▬▬▬ ▬▬ ▬ ▬▬▬ ▬▬ ▬▬ ▬▬▬ ▬ ▬▬▬▬ ▬▬ ▬▬▬ ▬▬ ▬ ▬▬▬ ▬▬▬▬ ▬▬ ▬ ▬▬▬ ▬▬ ▬▬ ▬▬▬ ▬ ▬▬▬▬ ▬▬ ▬▬▬ ▬▬ ▬ ▬▬▬ ▬▬▬▬ ▬▬ ▬ ▬▬▬ ▬▬ ▬▬ ▬▬▬ ▬ ▬▬▬▬ ▬▬ ▬▬▬ ▬▬ ▬ ▬▬▬ ▬▬▬▬ ▬▬ ▬ ▬▬▬ ▬▬ ▬▬ ▬▬▬ ▬ ▬▬▬▬ ▬▬ ▬▬▬ ▬▬ ▬ ▬▬▬ ▬▬▬▬ ▬▬ ▬ ▬▬▬ ▬▬ ▬▬ ▬▬▬ ▬ ▬▬▬▬ ▬▬ ▬▬▬ ▬▬ ▬ ▬▬▬ ▬▬▬▬ ▬▬ ▬ ▬▬▬ ▬▬ ▬▬ ▬▬▬ ▬ ▬▬▬▬ ▬▬ ▬▬▬ ▬▬ ▬ ▬▬▬ ▬▬▬▬ ▬▬ ▬ ▬▬▬ ▬▬ ▬▬ ▬▬▬ ▬ ▬▬▬▬ ▬▬ ▬▬▬ ▬▬ ▬ ▬▬▬ ▬▬▬▬ ▬▬ ▬ ▬▬▬ ▬▬ ▬▬ ▬▬▬ ▬ ▬▬▬▬ ▬▬ ▬▬▬ ▬▬ ▬ ▬▬▬ ▬▬▬▬ ▬▬ ▬ ▬▬▬ ▬▬ ▬▬ ▬▬▬ ▬ ▬▬▬▬ ▬▬ ▬▬▬ ▬▬ ▬ ▬▬▬ ▬▬▬▬ ▬▬ ▬ ▬▬▬ ▬▬ ▬▬ ▬▬▬ ▬ ▬▬▬▬ ▬▬ ▬▬▬ ▬▬ ▬ ▬▬▬ ▬▬▬▬ ▬▬ ▬ ▬▬▬ ▬▬ ▬▬ ▬▬▬ ▬ ▬▬▬▬ ▬▬ ▬▬▬ ▬▬ ▬ ▬▬▬ ▬▬▬▬ ▬▬ ▬ ▬▬▬ ▬▬ ▬▬ ▬▬▬ ▬ ▬▬▬▬ ▬▬ ▬▬▬ ▬▬ ▬ ▬▬▬ ▬▬▬▬ ▬▬ ▬ ▬▬▬ ▬▬ ▬▬ ▬▬▬ ▬ ▬▬▬▬ ▬▬ ▬▬▬ ▬▬ ▬ ▬▬▬ ▬▬▬▬ ▬▬ ▬ ▬▬▬ ▬▬ ▬▬ ▬▬▬ ▬ ▬▬▬▬ ▬▬ ▬▬▬ ▬▬ ▬ ▬▬▬ ▬▬▬▬ ▬▬ ▬ ▬▬▬ ▬▬ ▬▬ ▬▬▬ ▬ ▬▬▬▬ ▬▬ ▬▬▬ ▬▬ ▬ ▬▬▬ ▬▬▬▬ ▬▬ ▬ ▬▬▬ ▬▬ ▬▬ ▬▬▬ ▬ ▬▬▬▬ ▬▬ ▬▬▬ ▬▬ ▬ ▬▬▬ ▬▬▬▬ ▬▬ ▬ ▬▬▬ ▬▬ ▬▬ ▬▬▬ ▬ ▬▬▬▬ ▬▬ ▬▬▬ ▬▬ ▬ ▬▬▬ ▬▬▬▬ ▬▬ ▬ ▬▬▬ ▬▬ ▬▬ ▬▬▬ ▬ ▬▬▬▬ ▬▬ ▬▬▬ ▬▬ ▬ ▬▬▬ ▬▬▬▬ ▬▬ ▬ ▬▬▬ ▬▬ ▬▬ ▬▬▬ ▬ ▬▬▬▬ ▬▬ ▬▬▬ ▬▬ ▬ ▬▬▬ ▬▬▬▬ ▬▬ ▬ ▬▬▬ ▬▬ ▬▬ ▬▬▬ ▬ ▬▬▬▬ ▬▬ ▬▬▬ ▬▬ ▬ ▬▬▬ ▬▬▬▬ ▬▬ ▬ ▬▬▬ ▬▬ ▬▬ ▬▬▬ ▬ ▬▬▬▬ ▬▬ ▬▬▬ ▬▬ ▬ ▬▬▬ ▬▬▬▬ ▬▬ ▬ ▬▬▬ ▬▬ ▬▬ ▬▬▬ ▬ ▬▬▬▬ ▬▬ ▬▬▬ ▬▬ ▬ ▬▬▬ ▬▬▬▬ ▬▬ ▬ ▬▬▬ ▬▬ ▬▬ ▬▬▬ ▬ ▬▬▬▬ ▬▬ ▬▬▬ ▬▬ ▬ ▬▬▬ ▬▬▬▬ ▬▬ ▬ ▬▬▬ ▬▬ ▬▬ ▬▬▬ ▬ ▬▬▬▬ ▬▬ ▬▬▬ ▬▬ ▬ ▬▬▬ ▬▬▬▬ ▬▬ ▬ ▬▬▬ ▬▬ ▬▬ ▬▬▬ ▬ ▬▬▬▬ ▬▬ ▬▬▬ ▬▬ ▬ ▬▬▬ ▬▬▬▬ ▬▬ ▬ ▬▬▬ ▬▬ ▬▬ ▬▬▬ ▬ ▬▬▬▬ ▬▬ ▬▬▬ ▬▬ ▬ ▬▬▬ ▬▬▬▬ ▬▬ ▬ ▬▬▬ ▬▬ ▬▬ ▬▬▬ ▬ ▬▬▬▬ ▬▬ ▬▬▬ ▬▬ ▬ ▬▬▬ ▬▬▬▬ ▬▬ ▬ ▬▬▬ ▬▬ ▬▬ ▬▬▬ ▬ ▬▬▬▬ ▬▬ ▬▬▬ ▬▬ ▬ ▬▬▬ ▬▬▬▬ ▬▬ ▬ ▬▬▬ ▬▬ ▬▬ ▬▬▬ ▬ ▬▬▬▬ ▬▬ ▬▬▬ ▬▬ ▬ ▬▬▬ ▬▬▬▬ ▬▬ ▬ ▬▬▬ ▬▬ ▬▬ ▬▬▬ ▬ ▬▬▬▬ ▬▬ ▬▬▬ ▬▬ ▬ ▬▬▬ ▬▬▬▬ ▬▬ ▬ ▬▬▬ ▬▬ ▬▬ ▬▬▬ ▬ ▬▬▬▬ ▬▬ ▬▬▬ ▬▬ ▬ ▬▬▬ ▬▬▬▬ ▬▬ ▬ ▬▬▬ ▬▬ ▬▬ ▬▬▬ ▬ ▬▬▬▬ ▬▬ ▬▬▬ ▬▬ ▬ ▬▬▬ ▬▬▬▬ ▬▬ ▬ ▬▬▬ ▬▬ ▬▬ ▬▬▬ ▬ ▬▬▬▬ ▬▬ ▬▬▬ ▬▬ ▬ ▬▬▬ ▬▬▬▬ ▬▬ ▬ ▬▬▬ ▬▬ ▬▬ ▬▬▬ ▬ ▬▬▬▬ ▬▬ ▬▬▬ ▬▬ ▬ ▬▬▬ ▬▬▬▬ ▬▬ ▬ ▬▬▬ ▬▬ ▬▬ ▬▬▬ ▬ ▬▬▬▬ ▬▬ ▬▬▬ ▬▬ ▬ ▬▬▬ ▬▬▬▬ ▬▬ ▬ ▬▬▬ ▬▬ ▬▬ ▬▬▬ ▬ ▬▬▬▬ ▬▬ ▬▬▬ ▬▬ ▬ ▬▬▬ ▬▬▬▬ ▬▬ ▬ ▬▬▬ ▬▬ ▬▬ ▬▬▬ ▬ ▬▬▬▬ ▬▬ ▬▬▬ ▬▬ ▬ ▬▬▬ ▬▬▬▬ ▬▬ ▬ ▬▬▬ ▬▬ ▬▬ ▬▬▬ ▬ ▬▬▬▬ ▬▬ ▬▬▬ ▬▬ ▬ ▬▬▬ ▬▬▬▬ ▬▬ ▬ ▬▬▬ ▬▬ ▬▬ ▬▬▬ ▬ ▬▬▬▬ ▬▬ ▬▬▬ ▬▬ ▬ ▬▬▬ ▬▬▬▬ ▬▬ ▬ ▬▬▬ ▬▬ ▬▬ ▬▬▬ ▬ ▬▬▬▬ ▬▬ ▬▬▬ ▬▬ ▬ ▬▬▬ ▬▬▬▬ ▬▬ ▬ ▬▬▬ ▬▬ ▬▬ ▬▬▬ ▬ ▬▬▬▬ ▬▬ ▬▬▬ ▬▬ ▬ ▬▬▬ ▬▬▬▬ ▬▬ ▬ ▬▬▬ ▬▬ ▬▬ ▬▬▬ ▬ ▬▬▬▬ ▬▬ ▬▬▬ ▬▬ ▬ ▬▬▬ ▬▬▬▬ ▬▬ ▬ ▬▬▬ ▬▬
डॉ. साबिर खान को बिग बॉस विजेता
यमी मल्होत्रा ने किया सम्मानित
▬▬ ▬▬▬ ▬ ▬▬▬▬ ▬▬ ▬▬▬ ▬▬ ▬ ▬▬▬ ▬▬▬▬ ▬▬ ▬ ▬▬▬ ▬▬ ▬▬ ▬▬▬ ▬ ▬▬▬▬ ▬▬ ▬▬▬ ▬▬ ▬ ▬▬▬ ▬▬▬▬ ▬▬ ▬ ▬▬▬ ▬▬ ▬▬ ▬▬▬ ▬ ▬▬▬▬ ▬▬ ▬▬▬ ▬▬ ▬ ▬▬▬ ▬▬▬▬ ▬▬ ▬ ▬▬▬ ▬▬ ▬▬ ▬▬▬ ▬ ▬▬▬▬ ▬▬ ▬▬▬ ▬▬ ▬ ▬▬▬ ▬▬▬▬ ▬▬ ▬ ▬▬▬ ▬▬ ▬▬ ▬▬▬ ▬ ▬▬▬▬ ▬▬ ▬▬▬ ▬▬ ▬ ▬▬▬ ▬▬▬▬ ▬▬ ▬ ▬▬▬ ▬▬ ▬▬ ▬▬▬ ▬ ▬▬▬▬ ▬▬ ▬▬▬ ▬▬ ▬ ▬▬▬ ▬▬▬▬ ▬▬ ▬ ▬▬▬ ▬▬ ▬▬ ▬▬▬ ▬ ▬▬▬▬ ▬▬ ▬▬▬ ▬▬ ▬ ▬▬▬ ▬▬▬▬ ▬▬ ▬ ▬▬▬ ▬▬ ▬▬ ▬▬▬ ▬ ▬▬▬▬ ▬▬ ▬▬▬ ▬▬ ▬ ▬▬▬ ▬▬▬▬ ▬▬ ▬ ▬▬▬ ▬▬ ▬▬ ▬▬▬ ▬ ▬▬▬▬ ▬▬ ▬▬▬ ▬▬ ▬ ▬▬▬ ▬▬▬▬ ▬▬ ▬ ▬▬▬ ▬▬ ▬▬ ▬▬▬ ▬ ▬▬▬▬ ▬▬ ▬▬▬ ▬▬ ▬ ▬▬▬ ▬▬▬▬ ▬▬ ▬ ▬▬▬ ▬▬ ▬▬ ▬▬▬ ▬ ▬▬▬▬ ▬▬ ▬▬▬ ▬▬ ▬ ▬▬▬ ▬▬▬▬ ▬▬ ▬ ▬▬▬ ▬▬ ▬▬ ▬▬▬ ▬ ▬▬▬▬ ▬▬ ▬▬▬ ▬▬ ▬ ▬▬▬ ▬▬▬▬ ▬▬ ▬ ▬▬▬ ▬▬ ▬▬ ▬▬▬ ▬ ▬▬▬▬ ▬▬ ▬▬▬ ▬▬ ▬ ▬▬▬ ▬▬▬▬ ▬▬ ▬ ▬▬▬ ▬▬ ▬▬ ▬▬▬ ▬ ▬▬▬▬ ▬▬ ▬▬▬ ▬▬ ▬ ▬▬▬ ▬▬▬▬ ▬▬ ▬ ▬▬▬ ▬▬ ▬▬ ▬▬▬ ▬ ▬▬▬▬ ▬▬ ▬▬▬ ▬▬ ▬ ▬▬▬ ▬▬▬▬ ▬▬ ▬ ▬▬▬ ▬▬ ▬▬ ▬▬▬ ▬ ▬▬▬▬ ▬▬ ▬▬▬ ▬▬ ▬ ▬▬▬ ▬▬▬▬ ▬▬ ▬ ▬▬▬ ▬▬ ▬▬ ▬▬▬ ▬ ▬▬▬▬ ▬▬ ▬▬▬ ▬▬ ▬ ▬▬▬ ▬▬▬▬ ▬▬ ▬ ▬▬▬ ▬▬ ▬▬ ▬▬▬ ▬ ▬▬▬▬ ▬▬ ▬▬▬ ▬▬ ▬ ▬▬▬ ▬▬▬▬ ▬▬ ▬ ▬▬▬ ▬▬ ▬▬ ▬▬▬ ▬ ▬▬▬▬ ▬▬ ▬▬▬ ▬▬ ▬ ▬▬▬ ▬▬▬▬ ▬▬ ▬ ▬▬▬ ▬▬ ▬▬ ▬▬▬ ▬ ▬▬▬▬ ▬▬ ▬▬▬ ▬▬ ▬ ▬▬▬ ▬▬▬▬ ▬▬ ▬ ▬▬▬ ▬▬ ▬▬ ▬▬▬ ▬ ▬▬▬▬ ▬▬ ▬▬▬ ▬▬ ▬ ▬▬▬ ▬▬▬▬ ▬▬ ▬ ▬▬▬ ▬▬ ▬▬ ▬▬▬ ▬ ▬▬▬▬ ▬▬ ▬▬▬ ▬▬ ▬ ▬▬▬ ▬▬▬▬ ▬▬ ▬ ▬▬▬ ▬▬ ▬▬ ▬▬▬ ▬ ▬▬▬▬ ▬▬ ▬▬▬ ▬▬ ▬ ▬▬▬ ▬▬▬▬ ▬▬ ▬ ▬▬▬ ▬▬ ▬▬ ▬▬▬ ▬ ▬▬▬▬ ▬▬ ▬▬▬ ▬▬ ▬ ▬▬▬ ▬▬▬▬ ▬▬ ▬ ▬▬▬ ▬▬ ▬▬ ▬▬▬ ▬ ▬▬▬▬ ▬▬ ▬▬▬ ▬▬ ▬ ▬▬▬ ▬▬▬▬ ▬▬ ▬ ▬▬▬ ▬▬ ▬▬ ▬▬▬ ▬ ▬▬▬▬ ▬▬ ▬▬▬ ▬▬ ▬ ▬▬▬ ▬▬▬▬ ▬▬ ▬ ▬▬▬ ▬▬ ▬▬ ▬▬▬ ▬ ▬▬▬▬ ▬▬ ▬▬▬ ▬▬ ▬ ▬▬▬ ▬▬▬▬ ▬▬ ▬ ▬▬▬ ▬▬ ▬▬ ▬▬▬ ▬ ▬▬▬▬ ▬▬ ▬▬▬ ▬▬ ▬ ▬▬▬ ▬▬▬▬ ▬▬ ▬ ▬▬▬ ▬▬ ▬▬ ▬▬▬ ▬ ▬▬▬▬ ▬▬ ▬▬▬ ▬▬ ▬ ▬▬▬ ▬▬▬▬ ▬▬ ▬ ▬▬▬ ▬▬ ▬▬ ▬▬▬ ▬ ▬▬▬▬ ▬▬ ▬▬▬ ▬▬ ▬ ▬▬▬ ▬▬▬▬ ▬▬ ▬ ▬▬▬ ▬▬ ▬▬ ▬▬▬ ▬ ▬▬▬▬ ▬▬ ▬▬▬ ▬▬ ▬ ▬▬▬ ▬▬▬▬ ▬▬ ▬ ▬▬▬ ▬▬ ▬▬ ▬▬▬ ▬ ▬▬▬▬ ▬▬ ▬▬▬ ▬▬ ▬ ▬▬▬ ▬▬▬▬ ▬▬ ▬ ▬▬▬ ▬▬ ▬▬ ▬▬▬ ▬ ▬▬▬▬ ▬▬ ▬▬▬ ▬▬ ▬ ▬▬▬ ▬▬▬▬ ▬▬ ▬ ▬▬▬ ▬▬ ▬▬ ▬▬▬ ▬ ▬▬▬▬ ▬▬ ▬▬▬ ▬▬ ▬ ▬▬▬ ▬▬▬▬ ▬▬ ▬ ▬▬▬ ▬▬ ▬▬ ▬▬▬ ▬ ▬▬▬▬ ▬▬ ▬▬▬ ▬▬ ▬ ▬▬▬ ▬▬▬▬ ▬▬ ▬ ▬▬▬ ▬▬ ▬▬ ▬▬▬ ▬ ▬▬▬▬ ▬▬ ▬▬▬ ▬▬ ▬ ▬▬▬ ▬▬▬▬ ▬▬ ▬ ▬▬▬ ▬▬ ▬▬ ▬▬▬ ▬ ▬▬▬▬ ▬▬ ▬▬▬ ▬▬ ▬ ▬▬▬ ▬▬▬▬ ▬▬ ▬ ▬▬▬ ▬▬ ▬▬ ▬▬▬ ▬ ▬▬▬▬ ▬▬ ▬▬▬ ▬▬ ▬ ▬▬▬ ▬▬▬▬ ▬▬ ▬ ▬▬▬ ▬▬ ▬▬ ▬▬▬ ▬ ▬▬▬▬ ▬▬ ▬▬▬ ▬▬ ▬ ▬▬▬ ▬▬▬▬ ▬▬ ▬ ▬▬▬ ▬▬ ▬▬ ▬▬▬ ▬ ▬▬▬▬ ▬▬ ▬▬▬ ▬▬ ▬ ▬▬▬ ▬▬▬▬ ▬▬ ▬ ▬▬▬ ▬▬ ▬▬ ▬▬▬ ▬ ▬▬▬▬ ▬▬ ▬▬▬ ▬▬ ▬ ▬▬▬ ▬▬▬▬ ▬▬ ▬ ▬▬▬ ▬▬ ▬▬ ▬▬▬ ▬ ▬▬▬▬ ▬▬ ▬▬▬ ▬▬ ▬ ▬▬▬ ▬▬▬▬ ▬▬ ▬ ▬▬▬ ▬▬ ▬▬ ▬▬▬ ▬ ▬▬▬▬ ▬▬ ▬▬▬ ▬▬ ▬ ▬▬▬ ▬▬▬▬ ▬▬ ▬ ▬▬▬ ▬▬ ▬▬ ▬▬▬ ▬ ▬▬▬▬ ▬▬ ▬▬▬ ▬▬ ▬ ▬▬▬ ▬▬▬▬ ▬▬ ▬ ▬▬▬ ▬▬ ▬▬ ▬▬▬ ▬ ▬▬▬▬ ▬▬ ▬▬▬ ▬▬ ▬ ▬▬▬ ▬▬▬▬ ▬▬ ▬ ▬▬▬ ▬▬ ▬▬ ▬▬▬ ▬ ▬▬▬▬ ▬▬ ▬▬▬ ▬▬ ▬ ▬▬▬ ▬▬▬▬ ▬▬ ▬ ▬▬▬ ▬▬ ▬▬ ▬▬▬ ▬ ▬▬▬▬ ▬▬ ▬▬▬ ▬▬ ▬ ▬▬▬ ▬▬▬▬ ▬▬ ▬ ▬▬▬ ▬▬ ▬▬ ▬▬▬ ▬ ▬▬▬▬ ▬▬ ▬▬▬ ▬▬ ▬ ▬▬▬ ▬▬▬▬ ▬▬ ▬ ▬▬▬ ▬▬ ▬▬ ▬▬▬ ▬ ▬▬▬▬ ▬▬ ▬▬▬ ▬▬ ▬ ▬▬▬ ▬▬▬▬ ▬▬ ▬ ▬▬▬ ▬▬ ▬▬ ▬▬▬ ▬ ▬▬▬▬ ▬▬ ▬▬▬ ▬▬ ▬ ▬▬▬ ▬▬▬▬ ▬▬ ▬ ▬▬▬ ▬▬ ▬▬ ▬▬▬ ▬ ▬▬▬▬ ▬▬ ▬▬▬ ▬▬ ▬ ▬▬▬ ▬▬▬▬ ▬▬ ▬ ▬▬▬ ▬▬ ▬▬ ▬▬▬ ▬ ▬▬▬▬ ▬▬ ▬▬▬ ▬▬ ▬ ▬▬▬ ▬▬▬▬ ▬▬ ▬ ▬▬▬ ▬▬ ▬▬ ▬▬▬ ▬ ▬▬▬▬ ▬▬ ▬▬▬ ▬▬ ▬ ▬▬▬ ▬▬▬▬ ▬▬ ▬ ▬▬▬ ▬▬ ▬▬ ▬▬▬ ▬ ▬▬▬▬ ▬▬ ▬▬▬ ▬▬ ▬ ▬▬▬ ▬▬▬▬ ▬▬ ▬ ▬▬▬ ▬▬ ▬▬ ▬▬▬ ▬ ▬▬▬▬ ▬▬ ▬▬▬ ▬▬ ▬ ▬▬▬ ▬▬▬▬ ▬▬ ▬ ▬▬▬ ▬▬ ▬▬ ▬▬▬ ▬ ▬▬▬▬ ▬▬ ▬▬▬ ▬▬ ▬ ▬▬▬ ▬▬▬▬ ▬▬ ▬ ▬▬▬ ▬▬ ▬▬ ▬▬▬ ▬ ▬▬▬▬ ▬▬ ▬▬▬ ▬▬ ▬ ▬▬▬ ▬▬▬▬ ▬▬ ▬ ▬▬▬ ▬▬ ▬▬ ▬▬▬ ▬ ▬▬▬▬ ▬▬ ▬▬▬ ▬▬ ▬ ▬▬▬ ▬▬▬▬ ▬▬ ▬ ▬▬▬ ▬▬ ▬▬ ▬▬▬ ▬ ▬▬▬▬ ▬▬ ▬▬▬ ▬▬ ▬ ▬▬▬ ▬▬▬▬ ▬▬ ▬ ▬▬▬ ▬▬ ▬▬ ▬▬▬ ▬ ▬▬▬▬ ▬▬ ▬▬▬ ▬▬ ▬ ▬▬▬ ▬▬▬▬ ▬▬ ▬ ▬▬▬ ▬▬
▬▬ ▬▬▬ ▬ ▬▬▬▬ ▬▬ ▬▬▬ ▬▬ ▬ ▬▬▬ ▬▬▬▬ ▬▬ ▬ ▬▬▬ ▬▬ ▬▬ ▬▬▬ ▬ ▬▬▬▬ ▬▬ ▬▬▬ ▬▬ ▬ ▬▬▬ ▬▬▬▬ ▬▬ ▬ ▬▬▬ ▬▬ ▬▬ ▬▬▬ ▬ ▬▬▬▬ ▬▬ ▬▬▬ ▬▬ ▬ ▬▬▬ ▬▬▬▬ ▬▬ ▬ ▬▬▬ ▬▬ ▬▬ ▬▬▬ ▬ ▬▬▬▬ ▬▬ ▬▬▬ ▬▬ ▬ ▬▬▬ ▬▬▬▬ ▬▬ ▬ ▬▬▬ ▬▬ ▬▬ ▬▬▬ ▬ ▬▬▬▬ ▬▬ ▬▬▬ ▬▬ ▬ ▬▬▬ ▬▬▬▬ ▬▬ ▬ ▬▬▬ ▬▬ ▬▬ ▬▬▬ ▬ ▬▬▬▬ ▬▬ ▬▬▬ ▬▬ ▬ ▬▬▬ ▬▬▬▬ ▬▬ ▬ ▬▬▬ ▬▬ ▬▬ ▬▬▬ ▬ ▬▬▬▬ ▬▬ ▬▬▬ ▬▬ ▬ ▬▬▬ ▬▬▬▬ ▬▬ ▬ ▬▬▬ ▬▬ ▬▬ ▬▬▬ ▬ ▬▬▬▬ ▬▬ ▬▬▬ ▬▬ ▬ ▬▬▬ ▬▬▬▬ ▬▬ ▬ ▬▬▬ ▬▬ ▬▬ ▬▬▬ ▬ ▬▬▬▬ ▬▬ ▬▬▬ ▬▬ ▬ ▬▬▬ ▬▬▬▬ ▬▬ ▬ ▬▬▬ ▬▬ ▬▬ ▬▬▬ ▬ ▬▬▬▬ ▬▬ ▬▬▬ ▬▬ ▬ ▬▬▬ ▬▬▬▬ ▬▬ ▬ ▬▬▬ ▬▬ ▬▬ ▬▬▬ ▬ ▬▬▬▬ ▬▬ ▬▬▬ ▬▬ ▬ ▬▬▬ ▬▬▬▬ ▬▬ ▬ ▬▬▬ ▬▬ ▬▬ ▬▬▬ ▬ ▬▬▬▬ ▬▬ ▬▬▬ ▬▬ ▬ ▬▬▬ ▬▬▬▬ ▬▬ ▬ ▬▬▬ ▬▬ ▬▬ ▬▬▬ ▬ ▬▬▬▬ ▬▬ ▬▬▬ ▬▬ ▬ ▬▬▬ ▬▬▬▬ ▬▬ ▬ ▬▬▬ ▬▬ ▬▬ ▬▬▬ ▬ ▬▬▬▬ ▬▬ ▬▬▬ ▬▬ ▬ ▬▬▬ ▬▬▬▬ ▬▬ ▬ ▬▬▬ ▬▬ ▬▬ ▬▬▬ ▬ ▬▬▬▬ ▬▬ ▬▬▬ ▬▬ ▬ ▬▬▬ ▬▬▬▬ ▬▬ ▬ ▬▬▬ ▬▬ ▬▬ ▬▬▬ ▬ ▬▬▬▬ ▬▬ ▬▬▬ ▬▬ ▬ ▬▬▬ ▬▬▬▬ ▬▬ ▬ ▬▬▬ ▬▬ ▬▬ ▬▬▬ ▬ ▬▬▬▬ ▬▬ ▬▬▬ ▬▬ ▬ ▬▬▬ ▬▬▬▬ ▬▬ ▬ ▬▬▬ ▬▬ ▬▬ ▬▬▬ ▬ ▬▬▬▬ ▬▬ ▬▬▬ ▬▬ ▬ ▬▬▬ ▬▬▬▬ ▬▬ ▬ ▬▬▬ ▬▬ ▬▬ ▬▬▬ ▬ ▬▬▬▬ ▬▬ ▬▬▬ ▬▬ ▬ ▬▬▬ ▬▬▬▬ ▬▬ ▬ ▬▬▬ ▬▬ ▬▬ ▬▬▬ ▬ ▬▬▬▬ ▬▬ ▬▬▬ ▬▬ ▬ ▬▬▬ ▬▬▬▬ ▬▬ ▬ ▬▬▬ ▬▬ ▬▬ ▬▬▬ ▬ ▬▬▬▬ ▬▬ ▬▬▬ ▬▬ ▬ ▬▬▬ ▬▬▬▬ ▬▬ ▬ ▬▬▬ ▬▬ ▬▬ ▬▬▬ ▬ ▬▬▬▬ ▬▬ ▬▬▬ ▬▬ ▬ ▬▬▬ ▬▬▬▬ ▬▬ ▬ ▬▬▬ ▬▬ ▬▬ ▬▬▬ ▬ ▬▬▬▬ ▬▬ ▬▬▬ ▬▬ ▬ ▬▬▬ ▬▬▬▬ ▬▬ ▬ ▬▬▬ ▬▬ ▬▬ ▬▬▬ ▬ ▬▬▬▬ ▬▬ ▬▬▬ ▬▬ ▬ ▬▬▬ ▬▬▬▬ ▬▬ ▬ ▬▬▬ ▬▬ ▬▬ ▬▬▬ ▬ ▬▬▬▬ ▬▬ ▬▬▬ ▬▬ ▬ ▬▬▬ ▬▬▬▬ ▬▬ ▬ ▬▬▬ ▬▬ ▬▬ ▬▬▬ ▬ ▬▬▬▬ ▬▬ ▬▬▬ ▬▬ ▬ ▬▬▬ ▬▬▬▬ ▬▬ ▬ ▬▬▬ ▬▬ ▬▬ ▬▬▬ ▬ ▬▬▬▬ ▬▬ ▬▬▬ ▬▬ ▬ ▬▬▬ ▬▬▬▬ ▬▬ ▬ ▬▬▬ ▬▬ ▬▬ ▬▬▬ ▬ ▬▬▬▬ ▬▬ ▬▬▬ ▬▬ ▬ ▬▬▬ ▬▬▬▬ ▬▬ ▬ ▬▬▬ ▬▬ ▬▬ ▬▬▬ ▬ ▬▬▬▬ ▬▬ ▬▬▬ ▬▬ ▬ ▬▬▬ ▬▬▬▬ ▬▬ ▬ ▬▬▬ ▬▬ ▬▬ ▬▬▬ ▬ ▬▬▬▬ ▬▬ ▬▬▬ ▬▬ ▬ ▬▬▬ ▬▬▬▬ ▬▬ ▬ ▬▬▬ ▬▬ ▬▬ ▬▬▬ ▬ ▬▬▬▬ ▬▬ ▬▬▬ ▬▬ ▬ ▬▬▬ ▬▬▬▬ ▬▬ ▬ ▬▬▬ ▬▬ ▬▬ ▬▬▬ ▬ ▬▬▬▬ ▬▬ ▬▬▬ ▬▬ ▬ ▬▬▬ ▬▬▬▬ ▬▬ ▬ ▬▬▬ ▬▬ ▬▬ ▬▬▬ ▬ ▬▬▬▬ ▬▬ ▬▬▬ ▬▬ ▬ ▬▬▬ ▬▬▬▬ ▬▬ ▬ ▬▬▬ ▬▬ ▬▬ ▬▬▬ ▬ ▬▬▬▬ ▬▬ ▬▬▬ ▬▬ ▬ ▬▬▬ ▬▬▬▬ ▬▬ ▬ ▬▬▬ ▬▬ ▬▬ ▬▬▬ ▬ ▬▬▬▬ ▬▬ ▬▬▬ ▬▬ ▬ ▬▬▬ ▬▬▬▬ ▬▬ ▬ ▬▬▬ ▬▬ ▬▬ ▬▬▬ ▬ ▬▬▬▬ ▬▬ ▬▬▬ ▬▬ ▬ ▬▬▬ ▬▬▬▬ ▬▬ ▬ ▬▬▬ ▬▬ ▬▬ ▬▬▬ ▬ ▬▬▬▬ ▬▬ ▬▬▬ ▬▬ ▬ ▬▬▬ ▬▬▬▬ ▬▬ ▬ ▬▬▬ ▬▬ ▬▬ ▬▬▬ ▬ ▬▬▬▬ ▬▬ ▬▬▬ ▬▬ ▬ ▬▬▬ ▬▬▬▬ ▬▬ ▬ ▬▬▬ ▬▬ ▬▬ ▬▬▬ ▬ ▬▬▬▬ ▬▬ ▬▬▬ ▬▬ ▬ ▬▬▬ ▬▬▬▬ ▬▬ ▬ ▬▬▬ ▬▬ ▬▬ ▬▬▬ ▬ ▬▬▬▬ ▬▬ ▬▬▬ ▬▬ ▬ ▬▬▬ ▬▬▬▬ ▬▬ ▬ ▬▬▬ ▬▬ ▬▬ ▬▬▬ ▬ ▬▬▬▬ ▬▬ ▬▬▬ ▬▬ ▬ ▬▬▬ ▬▬▬▬ ▬▬ ▬ ▬▬▬ ▬▬ ▬▬ ▬▬▬ ▬ ▬▬▬▬ ▬▬ ▬▬▬ ▬▬ ▬ ▬▬▬ ▬▬▬▬ ▬▬ ▬ ▬▬▬ ▬▬ ▬▬ ▬▬▬ ▬ ▬▬▬▬ ▬▬ ▬▬▬ ▬▬ ▬ ▬▬▬ ▬▬▬▬ ▬▬ ▬ ▬▬▬ ▬▬ ▬▬ ▬▬▬ ▬ ▬▬▬▬ ▬▬ ▬▬▬ ▬▬ ▬ ▬▬▬ ▬▬▬▬ ▬▬ ▬ ▬▬▬ ▬▬ ▬▬ ▬▬▬ ▬ ▬▬▬▬ ▬▬ ▬▬▬ ▬▬ ▬ ▬▬▬ ▬▬▬▬ ▬▬ ▬ ▬▬▬ ▬▬ ▬▬ ▬▬▬ ▬ ▬▬▬▬ ▬▬ ▬▬▬ ▬▬ ▬ ▬▬▬ ▬▬▬▬ ▬▬ ▬ ▬▬▬ ▬▬ ▬▬ ▬▬▬ ▬ ▬▬▬▬ ▬▬ ▬▬▬ ▬▬ ▬ ▬▬▬ ▬▬▬▬ ▬▬ ▬ ▬▬▬ ▬▬ ▬▬ ▬▬▬ ▬ ▬▬▬▬ ▬▬ ▬▬▬ ▬▬ ▬ ▬▬▬ ▬▬▬▬ ▬▬ ▬ ▬▬▬ ▬▬ ▬▬ ▬▬▬ ▬ ▬▬▬▬ ▬▬ ▬▬▬ ▬▬ ▬ ▬▬▬ ▬▬▬▬ ▬▬ ▬ ▬▬▬ ▬▬ ▬▬ ▬▬▬ ▬ ▬▬▬▬ ▬▬ ▬▬▬ ▬▬ ▬ ▬▬▬ ▬▬▬▬ ▬▬ ▬ ▬▬▬ ▬▬ ▬▬ ▬▬▬ ▬ ▬▬▬▬ ▬▬ ▬▬▬ ▬▬ ▬ ▬▬▬ ▬▬▬▬ ▬▬ ▬ ▬▬▬ ▬▬ ▬▬ ▬▬▬ ▬ ▬▬▬▬ ▬▬ ▬▬▬ ▬▬ ▬ ▬▬▬ ▬▬▬▬ ▬▬ ▬ ▬▬▬ ▬▬ ▬▬ ▬▬▬ ▬ ▬▬▬▬ ▬▬ ▬▬▬ ▬▬ ▬ ▬▬▬ ▬▬▬▬ ▬▬ ▬ ▬▬▬ ▬▬ ▬▬ ▬▬▬ ▬ ▬▬▬▬ ▬▬ ▬▬▬ ▬▬ ▬ ▬▬▬ ▬▬▬▬ ▬▬ ▬ ▬▬▬ ▬▬ ▬▬ ▬▬▬ ▬ ▬▬▬▬ ▬▬ ▬▬▬ ▬▬ ▬ ▬▬▬ ▬▬▬▬ ▬▬ ▬ ▬▬▬ ▬▬ ▬▬ ▬▬▬ ▬ ▬▬▬▬ ▬▬ ▬▬▬ ▬▬ ▬ ▬▬▬ ▬▬▬▬ ▬▬ ▬ ▬▬▬ ▬▬ ▬▬ ▬▬▬ ▬ ▬▬▬▬ ▬▬ ▬▬▬ ▬▬ ▬ ▬▬▬ ▬▬▬▬ ▬▬ ▬ ▬▬▬ ▬▬ ▬▬ ▬▬▬ ▬ ▬▬▬▬ ▬▬ ▬▬▬ ▬▬ ▬ ▬▬▬ ▬▬▬▬ ▬▬ ▬ ▬▬▬ ▬▬ ▬▬ ▬▬▬ ▬ ▬▬▬▬ ▬▬ ▬▬▬ ▬▬ ▬ ▬▬▬ ▬▬▬▬ ▬▬ ▬ ▬▬▬ ▬▬ ▬▬ ▬▬▬ ▬ ▬▬▬▬ ▬▬ ▬▬▬ ▬▬ ▬ ▬▬▬ ▬▬▬▬ ▬▬ ▬ ▬▬▬ ▬▬
▬▬ ▬▬▬ ▬ ▬▬▬▬ ▬▬ ▬▬▬ ▬▬ ▬ ▬▬▬ ▬▬▬▬ ▬▬ ▬ ▬▬▬ ▬▬ ▬▬ ▬▬▬ ▬ ▬▬▬▬ ▬▬ ▬▬▬ ▬▬ ▬ ▬▬▬ ▬▬▬▬ ▬▬ ▬ ▬▬▬ ▬▬ ▬▬ ▬▬▬ ▬ ▬▬▬▬ ▬▬ ▬▬▬ ▬▬ ▬ ▬▬▬ ▬▬▬▬ ▬▬ ▬ ▬▬▬ ▬▬ ▬▬ ▬▬▬ ▬ ▬▬▬▬ ▬▬ ▬▬▬ ▬▬ ▬ ▬▬▬ ▬▬▬▬ ▬▬ ▬ ▬▬▬ ▬▬ ▬▬ ▬▬▬ ▬ ▬▬▬▬ ▬▬ ▬▬▬ ▬▬ ▬ ▬▬▬ ▬▬▬▬ ▬▬ ▬ ▬▬▬ ▬▬ ▬▬ ▬▬▬ ▬ ▬▬▬▬ ▬▬ ▬▬▬ ▬▬ ▬ ▬▬▬ ▬▬▬▬ ▬▬ ▬ ▬▬▬ ▬▬ ▬▬ ▬▬▬ ▬ ▬▬▬▬ ▬▬ ▬▬▬ ▬▬ ▬ ▬▬▬ ▬▬▬▬ ▬▬ ▬ ▬▬▬ ▬▬ ▬▬ ▬▬▬ ▬ ▬▬▬▬ ▬▬ ▬▬▬ ▬▬ ▬ ▬▬▬ ▬▬▬▬ ▬▬ ▬ ▬▬▬ ▬▬ ▬▬ ▬▬▬ ▬ ▬▬▬▬ ▬▬ ▬▬▬ ▬▬ ▬ ▬▬▬ ▬▬▬▬ ▬▬ ▬ ▬▬▬ ▬▬ ▬▬ ▬▬▬ ▬ ▬▬▬▬ ▬▬ ▬▬▬ ▬▬ ▬ ▬▬▬ ▬▬▬▬ ▬▬ ▬ ▬▬▬ ▬▬ ▬▬ ▬▬▬ ▬ ▬▬▬▬ ▬▬ ▬▬▬ ▬▬ ▬ ▬▬▬ ▬▬▬▬ ▬▬ ▬ ▬▬▬ ▬▬ ▬▬ ▬▬▬ ▬ ▬▬▬▬ ▬▬ ▬▬▬ ▬▬ ▬ ▬▬▬ ▬▬▬▬ ▬▬ ▬ ▬▬▬ ▬▬ ▬▬ ▬▬▬ ▬ ▬▬▬▬ ▬▬ ▬▬▬ ▬▬ ▬ ▬▬▬ ▬▬▬▬ ▬▬ ▬ ▬▬▬ ▬▬ ▬▬ ▬▬▬ ▬ ▬▬▬▬ ▬▬ ▬▬▬ ▬▬ ▬ ▬▬▬ ▬▬▬▬ ▬▬ ▬ ▬▬▬ ▬▬ ▬▬ ▬▬▬ ▬ ▬▬▬▬ ▬▬ ▬▬▬ ▬▬ ▬ ▬▬▬ ▬▬▬▬ ▬▬ ▬ ▬▬▬ ▬▬ ▬▬ ▬▬▬ ▬ ▬▬▬▬ ▬▬ ▬▬▬ ▬▬ ▬ ▬▬▬ ▬▬▬▬ ▬▬ ▬ ▬▬▬ ▬▬ ▬▬ ▬▬▬ ▬ ▬▬▬▬ ▬▬ ▬▬▬ ▬▬ ▬ ▬▬▬ ▬▬▬▬ ▬▬ ▬ ▬▬▬ ▬▬ ▬▬ ▬▬▬ ▬ ▬▬▬▬ ▬▬ ▬▬▬ ▬▬ ▬ ▬▬▬ ▬▬▬▬ ▬▬ ▬ ▬▬▬ ▬▬ ▬▬ ▬▬▬ ▬ ▬▬▬▬ ▬▬ ▬▬▬ ▬▬ ▬ ▬▬▬ ▬▬▬▬ ▬▬ ▬ ▬▬▬ ▬▬ ▬▬ ▬▬▬ ▬ ▬▬▬▬ ▬▬ ▬▬▬ ▬▬ ▬ ▬▬▬ ▬▬▬▬ ▬▬ ▬ ▬▬▬ ▬▬ ▬▬ ▬▬▬ ▬ ▬▬▬▬ ▬▬ ▬▬▬ ▬▬ ▬ ▬▬▬ ▬▬▬▬ ▬▬ ▬ ▬▬▬ ▬▬ ▬▬ ▬▬▬ ▬ ▬▬▬▬ ▬▬ ▬▬▬ ▬▬ ▬ ▬▬▬ ▬▬▬▬ ▬▬ ▬ ▬▬▬ ▬▬ ▬▬ ▬▬▬ ▬ ▬▬▬▬ ▬▬ ▬▬▬ ▬▬ ▬ ▬▬▬ ▬▬▬▬ ▬▬ ▬ ▬▬▬ ▬▬ ▬▬ ▬▬▬ ▬ ▬▬▬▬ ▬▬ ▬▬▬ ▬▬ ▬ ▬▬▬ ▬▬▬▬ ▬▬ ▬ ▬▬▬ ▬▬ ▬▬ ▬▬▬ ▬ ▬▬▬▬ ▬▬ ▬▬▬ ▬▬ ▬ ▬▬▬ ▬▬▬▬ ▬▬ ▬ ▬▬▬ ▬▬ ▬▬ ▬▬▬ ▬ ▬▬▬▬ ▬▬ ▬▬▬ ▬▬ ▬ ▬▬▬ ▬▬▬▬ ▬▬ ▬ ▬▬▬ ▬▬ ▬▬ ▬▬▬ ▬ ▬▬▬▬ ▬▬ ▬▬▬ ▬▬ ▬ ▬▬▬ ▬▬▬▬ ▬▬ ▬ ▬▬▬ ▬▬ ▬▬ ▬▬▬ ▬ ▬▬▬▬ ▬▬ ▬▬▬ ▬▬ ▬ ▬▬▬ ▬▬▬▬ ▬▬ ▬ ▬▬▬ ▬▬ ▬▬ ▬▬▬ ▬ ▬▬▬▬ ▬▬ ▬▬▬ ▬▬ ▬ ▬▬▬ ▬▬▬▬ ▬▬ ▬ ▬▬▬ ▬▬ ▬▬ ▬▬▬ ▬ ▬▬▬▬ ▬▬ ▬▬▬ ▬▬ ▬ ▬▬▬ ▬▬▬▬ ▬▬ ▬ ▬▬▬ ▬▬ ▬▬ ▬▬▬ ▬ ▬▬▬▬ ▬▬ ▬▬▬ ▬▬ ▬ ▬▬▬ ▬▬▬▬ ▬▬ ▬ ▬▬▬ ▬▬ ▬▬ ▬▬▬ ▬ ▬▬▬▬ ▬▬ ▬▬▬ ▬▬ ▬ ▬▬▬ ▬▬▬▬ ▬▬ ▬ ▬▬▬ ▬▬ ▬▬ ▬▬▬ ▬ ▬▬▬▬ ▬▬ ▬▬▬ ▬▬ ▬ ▬▬▬ ▬▬▬▬ ▬▬ ▬ ▬▬▬ ▬▬ ▬▬ ▬▬▬ ▬ ▬▬▬▬ ▬▬ ▬▬▬ ▬▬ ▬ ▬▬▬ ▬▬▬▬ ▬▬ ▬ ▬▬▬ ▬▬ ▬▬ ▬▬▬ ▬ ▬▬▬▬ ▬▬ ▬▬▬ ▬▬ ▬ ▬▬▬ ▬▬▬▬ ▬▬ ▬ ▬▬▬ ▬▬ ▬▬ ▬▬▬ ▬ ▬▬▬▬ ▬▬ ▬▬▬ ▬▬ ▬ ▬▬▬ ▬▬▬▬ ▬▬ ▬ ▬▬▬ ▬▬ ▬▬ ▬▬▬ ▬ ▬▬▬▬ ▬▬ ▬▬▬ ▬▬ ▬ ▬▬▬ ▬▬▬▬ ▬▬ ▬ ▬▬▬ ▬▬ ▬▬ ▬▬▬ ▬ ▬▬▬▬ ▬▬ ▬▬▬ ▬▬ ▬ ▬▬▬ ▬▬▬▬ ▬▬ ▬ ▬▬▬ ▬▬ ▬▬ ▬▬▬ ▬ ▬▬▬▬ ▬▬ ▬▬▬ ▬▬ ▬ ▬▬▬ ▬▬▬▬ ▬▬ ▬ ▬▬▬ ▬▬ ▬▬ ▬▬▬ ▬ ▬▬▬▬ ▬▬ ▬▬▬ ▬▬ ▬ ▬▬▬ ▬▬▬▬ ▬▬ ▬ ▬▬▬ ▬▬ ▬▬ ▬▬▬ ▬ ▬▬▬▬ ▬▬ ▬▬▬ ▬▬ ▬ ▬▬▬ ▬▬▬▬ ▬▬ ▬ ▬▬▬ ▬▬ ▬▬ ▬▬▬ ▬ ▬▬▬▬ ▬▬ ▬▬▬ ▬▬ ▬ ▬▬▬ ▬▬▬▬ ▬▬ ▬ ▬▬▬ ▬▬ ▬▬ ▬▬▬ ▬ ▬▬▬▬ ▬▬ ▬▬▬ ▬▬ ▬ ▬▬▬ ▬▬▬▬ ▬▬ ▬ ▬▬▬ ▬▬ ▬▬ ▬▬▬ ▬ ▬▬▬▬ ▬▬ ▬▬▬ ▬▬ ▬ ▬▬▬ ▬▬▬▬ ▬▬ ▬ ▬▬▬ ▬▬ ▬▬ ▬▬▬ ▬ ▬▬▬▬ ▬▬ ▬▬▬ ▬▬ ▬ ▬▬▬ ▬▬▬▬ ▬▬ ▬ ▬▬▬ ▬▬ ▬▬ ▬▬▬ ▬ ▬▬▬▬ ▬▬ ▬▬▬ ▬▬ ▬ ▬▬▬ ▬▬▬▬ ▬▬ ▬ ▬▬▬ ▬▬ ▬▬ ▬▬▬ ▬ ▬▬▬▬ ▬▬ ▬▬▬ ▬▬ ▬ ▬▬▬ ▬▬▬▬ ▬▬ ▬ ▬▬▬ ▬▬ ▬▬ ▬▬▬ ▬ ▬▬▬▬ ▬▬ ▬▬▬ ▬▬ ▬ ▬▬▬ ▬▬▬▬ ▬▬ ▬ ▬▬▬ ▬▬ ▬▬ ▬▬▬ ▬ ▬▬▬▬ ▬▬ ▬▬▬ ▬▬ ▬ ▬▬▬ ▬▬▬▬ ▬▬ ▬ ▬▬▬ ▬▬ ▬▬ ▬▬▬ ▬ ▬▬▬▬ ▬▬ ▬▬▬ ▬▬ ▬ ▬▬▬ ▬▬▬▬ ▬▬ ▬ ▬▬▬ ▬▬ ▬▬ ▬▬▬ ▬ ▬▬▬▬ ▬▬ ▬▬▬ ▬▬ ▬ ▬▬▬ ▬▬▬▬ ▬▬ ▬ ▬▬▬ ▬▬ ▬▬ ▬▬▬ ▬ ▬▬▬▬ ▬▬ ▬▬▬ ▬▬ ▬ ▬▬▬ ▬▬▬▬ ▬▬ ▬ ▬▬▬ ▬▬ ▬▬ ▬▬▬ ▬ ▬▬▬▬ ▬▬ ▬▬▬ ▬▬ ▬ ▬▬▬ ▬▬▬▬ ▬▬ ▬ ▬▬▬ ▬▬ ▬▬ ▬▬▬ ▬ ▬▬▬▬ ▬▬ ▬▬▬ ▬▬ ▬ ▬▬▬ ▬▬▬▬ ▬▬ ▬ ▬▬▬ ▬▬ ▬▬ ▬▬▬ ▬ ▬▬▬▬ ▬▬ ▬▬▬ ▬▬ ▬ ▬▬▬ ▬▬▬▬ ▬▬ ▬ ▬▬▬ ▬▬ ▬▬ ▬▬▬ ▬ ▬▬▬▬ ▬▬ ▬▬▬ ▬▬ ▬ ▬▬▬ ▬▬▬▬ ▬▬ ▬ ▬▬▬ ▬▬ ▬▬ ▬▬▬ ▬ ▬▬▬▬ ▬▬ ▬▬▬ ▬▬ ▬ ▬▬▬ ▬▬▬▬ ▬▬ ▬ ▬▬▬ ▬▬ ▬▬ ▬▬▬ ▬ ▬▬▬▬ ▬▬ ▬▬▬ ▬▬ ▬ ▬▬▬ ▬▬▬▬ ▬▬ ▬ ▬▬▬ ▬▬ ▬▬ ▬▬▬ ▬ ▬▬▬▬ ▬▬ ▬▬▬ ▬▬ ▬ ▬▬▬ ▬▬▬▬ ▬▬ ▬ ▬▬▬ ▬▬ ▬▬ ▬▬▬ ▬ ▬▬▬▬ ▬▬ ▬▬▬ ▬▬ ▬ ▬▬▬ ▬▬▬▬ ▬▬ ▬ ▬▬▬ ▬▬
▬▬ ▬▬▬ ▬ ▬▬▬▬ ▬▬ ▬▬▬ ▬▬ ▬ ▬▬▬ ▬▬▬▬ ▬▬ ▬ ▬▬▬ ▬▬ ▬▬ ▬▬▬ ▬ ▬▬▬▬ ▬▬ ▬▬▬ ▬▬ ▬ ▬▬▬ ▬▬▬▬ ▬▬ ▬ ▬▬▬ ▬▬ ▬▬ ▬▬▬ ▬ ▬▬▬▬ ▬▬ ▬▬▬ ▬▬ ▬ ▬▬▬ ▬▬▬▬ ▬▬ ▬ ▬▬▬ ▬▬ ▬▬ ▬▬▬ ▬ ▬▬▬▬ ▬▬ ▬▬▬ ▬▬ ▬ ▬▬▬ ▬▬▬▬ ▬▬ ▬ ▬▬▬ ▬▬ ▬▬ ▬▬▬ ▬ ▬▬▬▬ ▬▬ ▬▬▬ ▬▬ ▬ ▬▬▬ ▬▬▬▬ ▬▬ ▬ ▬▬▬ ▬▬ ▬▬ ▬▬▬ ▬ ▬▬▬▬ ▬▬ ▬▬▬ ▬▬ ▬ ▬▬▬ ▬▬▬▬ ▬▬ ▬ ▬▬▬ ▬▬ ▬▬ ▬▬▬ ▬ ▬▬▬▬ ▬▬ ▬▬▬ ▬▬ ▬ ▬▬▬ ▬▬▬▬ ▬▬ ▬ ▬▬▬ ▬▬ ▬▬ ▬▬▬ ▬ ▬▬▬▬ ▬▬ ▬▬▬ ▬▬ ▬ ▬▬▬ ▬▬▬▬ ▬▬ ▬ ▬▬▬ ▬▬ ▬▬ ▬▬▬ ▬ ▬▬▬▬ ▬▬ ▬▬▬ ▬▬ ▬ ▬▬▬ ▬▬▬▬ ▬▬ ▬ ▬▬▬ ▬▬ ▬▬ ▬▬▬ ▬ ▬▬▬▬ ▬▬ ▬▬▬ ▬▬ ▬ ▬▬▬ ▬▬▬▬ ▬▬ ▬ ▬▬▬ ▬▬ ▬▬ ▬▬▬ ▬ ▬▬▬▬ ▬▬ ▬▬▬ ▬▬ ▬ ▬▬▬ ▬▬▬▬ ▬▬ ▬ ▬▬▬ ▬▬ ▬▬ ▬▬▬ ▬ ▬▬▬▬ ▬▬ ▬▬▬ ▬▬ ▬ ▬▬▬ ▬▬▬▬ ▬▬ ▬ ▬▬▬ ▬▬ ▬▬ ▬▬▬ ▬ ▬▬▬▬ ▬▬ ▬▬▬ ▬▬ ▬ ▬▬▬ ▬▬▬▬ ▬▬ ▬ ▬▬▬ ▬▬ ▬▬ ▬▬▬ ▬ ▬▬▬▬ ▬▬ ▬▬▬ ▬▬ ▬ ▬▬▬ ▬▬▬▬ ▬▬ ▬ ▬▬▬ ▬▬ ▬▬ ▬▬▬ ▬ ▬▬▬▬ ▬▬ ▬▬▬ ▬▬ ▬ ▬▬▬ ▬▬▬▬ ▬▬ ▬ ▬▬▬ ▬▬ ▬▬ ▬▬▬ ▬ ▬▬▬▬ ▬▬ ▬▬▬ ▬▬ ▬ ▬▬▬ ▬▬▬▬ ▬▬ ▬ ▬▬▬ ▬▬ ▬▬ ▬▬▬ ▬ ▬▬▬▬ ▬▬ ▬▬▬ ▬▬ ▬ ▬▬▬ ▬▬▬▬ ▬▬ ▬ ▬▬▬ ▬▬ ▬▬ ▬▬▬ ▬ ▬▬▬▬ ▬▬ ▬▬▬ ▬▬ ▬ ▬▬▬ ▬▬▬▬ ▬▬ ▬ ▬▬▬ ▬▬ ▬▬ ▬▬▬ ▬ ▬▬▬▬ ▬▬ ▬▬▬ ▬▬ ▬ ▬▬▬ ▬▬▬▬ ▬▬ ▬ ▬▬▬ ▬▬ ▬▬ ▬▬▬ ▬ ▬▬▬▬ ▬▬ ▬▬▬ ▬▬ ▬ ▬▬▬ ▬▬▬▬ ▬▬ ▬ ▬▬▬ ▬▬ ▬▬ ▬▬▬ ▬ ▬▬▬▬ ▬▬ ▬▬▬ ▬▬ ▬ ▬▬▬ ▬▬▬▬ ▬▬ ▬ ▬▬▬ ▬▬ ▬▬ ▬▬▬ ▬ ▬▬▬▬ ▬▬ ▬▬▬ ▬▬ ▬ ▬▬▬ ▬▬▬▬ ▬▬ ▬ ▬▬▬ ▬▬ ▬▬ ▬▬▬ ▬ ▬▬▬▬ ▬▬ ▬▬▬ ▬▬ ▬ ▬▬▬ ▬▬▬▬ ▬▬ ▬ ▬▬▬ ▬▬ ▬▬ ▬▬▬ ▬ ▬▬▬▬ ▬▬ ▬▬▬ ▬▬ ▬ ▬▬▬ ▬▬▬▬ ▬▬ ▬ ▬▬▬ ▬▬ ▬▬ ▬▬▬ ▬ ▬▬▬▬ ▬▬ ▬▬▬ ▬▬ ▬ ▬▬▬ ▬▬▬▬ ▬▬ ▬ ▬▬▬ ▬▬ ▬▬ ▬▬▬ ▬ ▬▬▬▬ ▬▬ ▬▬▬ ▬▬ ▬ ▬▬▬ ▬▬▬▬ ▬▬ ▬ ▬▬▬ ▬▬ ▬▬ ▬▬▬ ▬ ▬▬▬▬ ▬▬ ▬▬▬ ▬▬ ▬ ▬▬▬ ▬▬▬▬ ▬▬ ▬ ▬▬▬ ▬▬ ▬▬ ▬▬▬ ▬ ▬▬▬▬ ▬▬ ▬▬▬ ▬▬ ▬ ▬▬▬ ▬▬▬▬ ▬▬ ▬ ▬▬▬ ▬▬ ▬▬ ▬▬▬ ▬ ▬▬▬▬ ▬▬ ▬▬▬ ▬▬ ▬ ▬▬▬ ▬▬▬▬ ▬▬ ▬ ▬▬▬ ▬▬ ▬▬ ▬▬▬ ▬ ▬▬▬▬ ▬▬ ▬▬▬ ▬▬ ▬ ▬▬▬ ▬▬▬▬ ▬▬ ▬ ▬▬▬ ▬▬ ▬▬ ▬▬▬ ▬ ▬▬▬▬ ▬▬ ▬▬▬ ▬▬ ▬ ▬▬▬ ▬▬▬▬ ▬▬ ▬ ▬▬▬ ▬▬ ▬▬ ▬▬▬ ▬ ▬▬▬▬ ▬▬ ▬▬▬ ▬▬ ▬ ▬▬▬ ▬▬▬▬ ▬▬ ▬ ▬▬▬ ▬▬ ▬▬ ▬▬▬ ▬ ▬▬▬▬ ▬▬ ▬▬▬ ▬▬ ▬ ▬▬▬ ▬▬▬▬ ▬▬ ▬ ▬▬▬ ▬▬ ▬▬ ▬▬▬ ▬ ▬▬▬▬ ▬▬ ▬▬▬ ▬▬ ▬ ▬▬▬ ▬▬▬▬ ▬▬ ▬ ▬▬▬ ▬▬ ▬▬ ▬▬▬ ▬ ▬▬▬▬ ▬▬ ▬▬▬ ▬▬ ▬ ▬▬▬ ▬▬▬▬ ▬▬ ▬ ▬▬▬ ▬▬ ▬▬ ▬▬▬ ▬ ▬▬▬▬ ▬▬ ▬▬▬ ▬▬ ▬ ▬▬▬ ▬▬▬▬ ▬▬ ▬ ▬▬▬ ▬▬ ▬▬ ▬▬▬ ▬ ▬▬▬▬ ▬▬ ▬▬▬ ▬▬ ▬ ▬▬▬ ▬▬▬▬ ▬▬ ▬ ▬▬▬ ▬▬ ▬▬ ▬▬▬ ▬ ▬▬▬▬ ▬▬ ▬▬▬ ▬▬ ▬ ▬▬▬ ▬▬▬▬ ▬▬ ▬ ▬▬▬ ▬▬ ▬▬ ▬▬▬ ▬ ▬▬▬▬ ▬▬ ▬▬▬ ▬▬ ▬ ▬▬▬ ▬▬▬▬ ▬▬ ▬ ▬▬▬ ▬▬ ▬▬ ▬▬▬ ▬ ▬▬▬▬ ▬▬ ▬▬▬ ▬▬ ▬ ▬▬▬ ▬▬▬▬ ▬▬ ▬ ▬▬▬ ▬▬ ▬▬ ▬▬▬ ▬ ▬▬▬▬ ▬▬ ▬▬▬ ▬▬ ▬ ▬▬▬ ▬▬▬▬ ▬▬ ▬ ▬▬▬ ▬▬ ▬▬ ▬▬▬ ▬ ▬▬▬▬ ▬▬ ▬▬▬ ▬▬ ▬ ▬▬▬ ▬▬▬▬ ▬▬ ▬ ▬▬▬ ▬▬ ▬▬ ▬▬▬ ▬ ▬▬▬▬ ▬▬ ▬▬▬ ▬▬ ▬ ▬▬▬ ▬▬▬▬ ▬▬ ▬ ▬▬▬ ▬▬ ▬▬ ▬▬▬ ▬ ▬▬▬▬ ▬▬ ▬▬▬ ▬▬ ▬ ▬▬▬ ▬▬▬▬ ▬▬ ▬ ▬▬▬ ▬▬ ▬▬ ▬▬▬ ▬ ▬▬▬▬ ▬▬ ▬▬▬ ▬▬ ▬ ▬▬▬ ▬▬▬▬ ▬▬ ▬ ▬▬▬ ▬▬ ▬▬ ▬▬▬ ▬ ▬▬▬▬ ▬▬ ▬▬▬ ▬▬ ▬ ▬▬▬ ▬▬▬▬ ▬▬ ▬ ▬▬▬ ▬▬ ▬▬ ▬▬▬ ▬ ▬▬▬▬ ▬▬ ▬▬▬ ▬▬ ▬ ▬▬▬ ▬▬▬▬ ▬▬ ▬ ▬▬▬ ▬▬ ▬▬ ▬▬▬ ▬ ▬▬▬▬ ▬▬ ▬▬▬ ▬▬ ▬ ▬▬▬ ▬▬▬▬ ▬▬ ▬ ▬▬▬ ▬▬ ▬▬ ▬▬▬ ▬ ▬▬▬▬ ▬▬ ▬▬▬ ▬▬ ▬ ▬▬▬ ▬▬▬▬ ▬▬ ▬ ▬▬▬ ▬▬ ▬▬ ▬▬▬ ▬ ▬▬▬▬ ▬▬ ▬▬▬ ▬▬ ▬ ▬▬▬ ▬▬▬▬ ▬▬ ▬ ▬▬▬ ▬▬ ▬▬ ▬▬▬ ▬ ▬▬▬▬ ▬▬ ▬▬▬ ▬▬ ▬ ▬▬▬ ▬▬▬▬ ▬▬ ▬ ▬▬▬ ▬▬ ▬▬ ▬▬▬ ▬ ▬▬▬▬ ▬▬ ▬▬▬ ▬▬ ▬ ▬▬▬ ▬▬▬▬ ▬▬ ▬ ▬▬▬ ▬▬ ▬▬ ▬▬▬ ▬ ▬▬▬▬ ▬▬ ▬▬▬ ▬▬ ▬ ▬▬▬ ▬▬▬▬ ▬▬ ▬ ▬▬▬ ▬▬ ▬▬ ▬▬▬ ▬ ▬▬▬▬ ▬▬ ▬▬▬ ▬▬ ▬ ▬▬▬ ▬▬▬▬ ▬▬ ▬ ▬▬▬ ▬▬ ▬▬ ▬▬▬ ▬ ▬▬▬▬ ▬▬ ▬▬▬ ▬▬ ▬ ▬▬▬ ▬▬▬▬ ▬▬ ▬ ▬▬▬ ▬▬ ▬▬ ▬▬▬ ▬ ▬▬▬▬ ▬▬ ▬▬▬ ▬▬ ▬ ▬▬▬ ▬▬▬▬ ▬▬ ▬ ▬▬▬ ▬▬ ▬▬ ▬▬▬ ▬ ▬▬▬▬ ▬▬ ▬▬▬ ▬▬ ▬ ▬▬▬ ▬▬▬▬ ▬▬ ▬ ▬▬▬ ▬▬ ▬▬ ▬▬▬ ▬ ▬▬▬▬ ▬▬ ▬▬▬ ▬▬ ▬ ▬▬▬ ▬▬▬▬ ▬▬ ▬ ▬▬▬ ▬▬ ▬▬ ▬▬▬ ▬ ▬▬▬▬ ▬▬ ▬▬▬ ▬▬ ▬ ▬▬▬ ▬▬▬▬ ▬▬ ▬ ▬▬▬ ▬▬ ▬▬ ▬▬▬ ▬ ▬▬▬▬ ▬▬ ▬▬▬ ▬▬ ▬ ▬▬▬ ▬▬▬▬ ▬▬ ▬ ▬▬▬ ▬▬
आपरेशन सिंदूर और भारतीय सांस्कृतिक की दिखाई झलक
▬▬ ▬▬▬ ▬ ▬▬▬▬ ▬▬ ▬▬▬ ▬▬ ▬ ▬▬▬ ▬▬▬▬ ▬▬ ▬ ▬▬▬ ▬▬ ▬▬ ▬▬▬ ▬ ▬▬▬▬ ▬▬ ▬▬▬ ▬▬ ▬ ▬▬▬ ▬▬▬▬ ▬▬ ▬ ▬▬▬ ▬▬ ▬▬ ▬▬▬ ▬ ▬▬▬▬ ▬▬ ▬▬▬ ▬▬ ▬ ▬▬▬ ▬▬▬▬ ▬▬ ▬ ▬▬▬ ▬▬ ▬▬ ▬▬▬ ▬ ▬▬▬▬ ▬▬ ▬▬▬ ▬▬ ▬ ▬▬▬ ▬▬▬▬ ▬▬ ▬ ▬▬▬ ▬▬ ▬▬ ▬▬▬ ▬ ▬▬▬▬ ▬▬ ▬▬▬ ▬▬ ▬ ▬▬▬ ▬▬▬▬ ▬▬ ▬ ▬▬▬ ▬▬ ▬▬ ▬▬▬ ▬ ▬▬▬▬ ▬▬ ▬▬▬ ▬▬ ▬ ▬▬▬ ▬▬▬▬ ▬▬ ▬ ▬▬▬ ▬▬ ▬▬ ▬▬▬ ▬ ▬▬▬▬ ▬▬ ▬▬▬ ▬▬ ▬ ▬▬▬ ▬▬▬▬ ▬▬ ▬ ▬▬▬ ▬▬ ▬▬ ▬▬▬ ▬ ▬▬▬▬ ▬▬ ▬▬▬ ▬▬ ▬ ▬▬▬ ▬▬▬▬ ▬▬ ▬ ▬▬▬ ▬▬ ▬▬ ▬▬▬ ▬ ▬▬▬▬ ▬▬ ▬▬▬ ▬▬ ▬ ▬▬▬ ▬▬▬▬ ▬▬ ▬ ▬▬▬ ▬▬ ▬▬ ▬▬▬ ▬ ▬▬▬▬ ▬▬ ▬▬▬ ▬▬ ▬ ▬▬▬ ▬▬▬▬ ▬▬ ▬ ▬▬▬ ▬▬ ▬▬ ▬▬▬ ▬ ▬▬▬▬ ▬▬ ▬▬▬ ▬▬ ▬ ▬▬▬ ▬▬▬▬ ▬▬ ▬ ▬▬▬ ▬▬ ▬▬ ▬▬▬ ▬ ▬▬▬▬ ▬▬ ▬▬▬ ▬▬ ▬ ▬▬▬ ▬▬▬▬ ▬▬ ▬ ▬▬▬ ▬▬ ▬▬ ▬▬▬ ▬ ▬▬▬▬ ▬▬ ▬▬▬ ▬▬ ▬ ▬▬▬ ▬▬▬▬ ▬▬ ▬ ▬▬▬ ▬▬ ▬▬ ▬▬▬ ▬ ▬▬▬▬ ▬▬ ▬▬▬ ▬▬ ▬ ▬▬▬ ▬▬▬▬ ▬▬ ▬ ▬▬▬ ▬▬ ▬▬ ▬▬▬ ▬ ▬▬▬▬ ▬▬ ▬▬▬ ▬▬ ▬ ▬▬▬ ▬▬▬▬ ▬▬ ▬ ▬▬▬ ▬▬ ▬▬ ▬▬▬ ▬ ▬▬▬▬ ▬▬ ▬▬▬ ▬▬ ▬ ▬▬▬ ▬▬▬▬ ▬▬ ▬ ▬▬▬ ▬▬ ▬▬ ▬▬▬ ▬ ▬▬▬▬ ▬▬ ▬▬▬ ▬▬ ▬ ▬▬▬ ▬▬▬▬ ▬▬ ▬ ▬▬▬ ▬▬ ▬▬ ▬▬▬ ▬ ▬▬▬▬ ▬▬ ▬▬▬ ▬▬ ▬ ▬▬▬ ▬▬▬▬ ▬▬ ▬ ▬▬▬ ▬▬ ▬▬ ▬▬▬ ▬ ▬▬▬▬ ▬▬ ▬▬▬ ▬▬ ▬ ▬▬▬ ▬▬▬▬ ▬▬ ▬ ▬▬▬ ▬▬ ▬▬ ▬▬▬ ▬ ▬▬▬▬ ▬▬ ▬▬▬ ▬▬ ▬ ▬▬▬ ▬▬▬▬ ▬▬ ▬ ▬▬▬ ▬▬ ▬▬ ▬▬▬ ▬ ▬▬▬▬ ▬▬ ▬▬▬ ▬▬ ▬ ▬▬▬ ▬▬▬▬ ▬▬ ▬ ▬▬▬ ▬▬ ▬▬ ▬▬▬ ▬ ▬▬▬▬ ▬▬ ▬▬▬ ▬▬ ▬ ▬▬▬ ▬▬▬▬ ▬▬ ▬ ▬▬▬ ▬▬ ▬▬ ▬▬▬ ▬ ▬▬▬▬ ▬▬ ▬▬▬ ▬▬ ▬ ▬▬▬ ▬▬▬▬ ▬▬ ▬ ▬▬▬ ▬▬ ▬▬ ▬▬▬ ▬ ▬▬▬▬ ▬▬ ▬▬▬ ▬▬ ▬ ▬▬▬ ▬▬▬▬ ▬▬ ▬ ▬▬▬ ▬▬ ▬▬ ▬▬▬ ▬ ▬▬▬▬ ▬▬ ▬▬▬ ▬▬ ▬ ▬▬▬ ▬▬▬▬ ▬▬ ▬ ▬▬▬ ▬▬ ▬▬ ▬▬▬ ▬ ▬▬▬▬ ▬▬ ▬▬▬ ▬▬ ▬ ▬▬▬ ▬▬▬▬ ▬▬ ▬ ▬▬▬ ▬▬ ▬▬ ▬▬▬ ▬ ▬▬▬▬ ▬▬ ▬▬▬ ▬▬ ▬ ▬▬▬ ▬▬▬▬ ▬▬ ▬ ▬▬▬ ▬▬ ▬▬ ▬▬▬ ▬ ▬▬▬▬ ▬▬ ▬▬▬ ▬▬ ▬ ▬▬▬ ▬▬▬▬ ▬▬ ▬ ▬▬▬ ▬▬ ▬▬ ▬▬▬ ▬ ▬▬▬▬ ▬▬ ▬▬▬ ▬▬ ▬ ▬▬▬ ▬▬▬▬ ▬▬ ▬ ▬▬▬ ▬▬ ▬▬ ▬▬▬ ▬ ▬▬▬▬ ▬▬ ▬▬▬ ▬▬ ▬ ▬▬▬ ▬▬▬▬ ▬▬ ▬ ▬▬▬ ▬▬ ▬▬ ▬▬▬ ▬ ▬▬▬▬ ▬▬ ▬▬▬ ▬▬ ▬ ▬▬▬ ▬▬▬▬ ▬▬ ▬ ▬▬▬ ▬▬ ▬▬ ▬▬▬ ▬ ▬▬▬▬ ▬▬ ▬▬▬ ▬▬ ▬ ▬▬▬ ▬▬▬▬ ▬▬ ▬ ▬▬▬ ▬▬ ▬▬ ▬▬▬ ▬ ▬▬▬▬ ▬▬ ▬▬▬ ▬▬ ▬ ▬▬▬ ▬▬▬▬ ▬▬ ▬ ▬▬▬ ▬▬ ▬▬ ▬▬▬ ▬ ▬▬▬▬ ▬▬ ▬▬▬ ▬▬ ▬ ▬▬▬ ▬▬▬▬ ▬▬ ▬ ▬▬▬ ▬▬ ▬▬ ▬▬▬ ▬ ▬▬▬▬ ▬▬ ▬▬▬ ▬▬ ▬ ▬▬▬ ▬▬▬▬ ▬▬ ▬ ▬▬▬ ▬▬ ▬▬ ▬▬▬ ▬ ▬▬▬▬ ▬▬ ▬▬▬ ▬▬ ▬ ▬▬▬ ▬▬▬▬ ▬▬ ▬ ▬▬▬ ▬▬ ▬▬ ▬▬▬ ▬ ▬▬▬▬ ▬▬ ▬▬▬ ▬▬ ▬ ▬▬▬ ▬▬▬▬ ▬▬ ▬ ▬▬▬ ▬▬ ▬▬ ▬▬▬ ▬ ▬▬▬▬ ▬▬ ▬▬▬ ▬▬ ▬ ▬▬▬ ▬▬▬▬ ▬▬ ▬ ▬▬▬ ▬▬ ▬▬ ▬▬▬ ▬ ▬▬▬▬ ▬▬ ▬▬▬ ▬▬ ▬ ▬▬▬ ▬▬▬▬ ▬▬ ▬ ▬▬▬ ▬▬ ▬▬ ▬▬▬ ▬ ▬▬▬▬ ▬▬ ▬▬▬ ▬▬ ▬ ▬▬▬ ▬▬▬▬ ▬▬ ▬ ▬▬▬ ▬▬ ▬▬ ▬▬▬ ▬ ▬▬▬▬ ▬▬ ▬▬▬ ▬▬ ▬ ▬▬▬ ▬▬▬▬ ▬▬ ▬ ▬▬▬ ▬▬ ▬▬ ▬▬▬ ▬ ▬▬▬▬ ▬▬ ▬▬▬ ▬▬ ▬ ▬▬▬ ▬▬▬▬ ▬▬ ▬ ▬▬▬ ▬▬ ▬▬ ▬▬▬ ▬ ▬▬▬▬ ▬▬ ▬▬▬ ▬▬ ▬ ▬▬▬ ▬▬▬▬ ▬▬ ▬ ▬▬▬ ▬▬ ▬▬ ▬▬▬ ▬ ▬▬▬▬ ▬▬ ▬▬▬ ▬▬ ▬ ▬▬▬ ▬▬▬▬ ▬▬ ▬ ▬▬▬ ▬▬ ▬▬ ▬▬▬ ▬ ▬▬▬▬ ▬▬ ▬▬▬ ▬▬ ▬ ▬▬▬ ▬▬▬▬ ▬▬ ▬ ▬▬▬ ▬▬ ▬▬ ▬▬▬ ▬ ▬▬▬▬ ▬▬ ▬▬▬ ▬▬ ▬ ▬▬▬ ▬▬▬▬ ▬▬ ▬ ▬▬▬ ▬▬ ▬▬ ▬▬▬ ▬ ▬▬▬▬ ▬▬ ▬▬▬ ▬▬ ▬ ▬▬▬ ▬▬▬▬ ▬▬ ▬ ▬▬▬ ▬▬ ▬▬ ▬▬▬ ▬ ▬▬▬▬ ▬▬ ▬▬▬ ▬▬ ▬ ▬▬▬ ▬▬▬▬ ▬▬ ▬ ▬▬▬ ▬▬ ▬▬ ▬▬▬ ▬ ▬▬▬▬ ▬▬ ▬▬▬ ▬▬ ▬ ▬▬▬ ▬▬▬▬ ▬▬ ▬ ▬▬▬ ▬▬ ▬▬ ▬▬▬ ▬ ▬▬▬▬ ▬▬ ▬▬▬ ▬▬ ▬ ▬▬▬ ▬▬▬▬ ▬▬ ▬ ▬▬▬ ▬▬ ▬▬ ▬▬▬ ▬ ▬▬▬▬ ▬▬ ▬▬▬ ▬▬ ▬ ▬▬▬ ▬▬▬▬ ▬▬ ▬ ▬▬▬ ▬▬ ▬▬ ▬▬▬ ▬ ▬▬▬▬ ▬▬ ▬▬▬ ▬▬ ▬ ▬▬▬ ▬▬▬▬ ▬▬ ▬ ▬▬▬ ▬▬ ▬▬ ▬▬▬ ▬ ▬▬▬▬ ▬▬ ▬▬▬ ▬▬ ▬ ▬▬▬ ▬▬▬▬ ▬▬ ▬ ▬▬▬ ▬▬ ▬▬ ▬▬▬ ▬ ▬▬▬▬ ▬▬ ▬▬▬ ▬▬ ▬ ▬▬▬ ▬▬▬▬ ▬▬ ▬ ▬▬▬ ▬▬ ▬▬ ▬▬▬ ▬ ▬▬▬▬ ▬▬ ▬▬▬ ▬▬ ▬ ▬▬▬ ▬▬▬▬ ▬▬ ▬ ▬▬▬ ▬▬ ▬▬ ▬▬▬ ▬ ▬▬▬▬ ▬▬ ▬▬▬ ▬▬ ▬ ▬▬▬ ▬▬▬▬ ▬▬ ▬ ▬▬▬ ▬▬ ▬▬ ▬▬▬ ▬ ▬▬▬▬ ▬▬ ▬▬▬ ▬▬ ▬ ▬▬▬ ▬▬▬▬ ▬▬ ▬ ▬▬▬ ▬▬ ▬▬ ▬▬▬ ▬ ▬▬▬▬ ▬▬ ▬▬▬ ▬▬ ▬ ▬▬▬ ▬▬▬▬ ▬▬ ▬ ▬▬▬ ▬▬ ▬▬ ▬▬▬ ▬ ▬▬▬▬ ▬▬ ▬▬▬ ▬▬ ▬ ▬▬▬ ▬▬▬▬ ▬▬ ▬ ▬▬▬ ▬▬ ▬▬ ▬▬▬ ▬ ▬▬▬▬ ▬▬ ▬▬▬ ▬▬ ▬ ▬▬▬ ▬▬▬▬ ▬▬ ▬ ▬▬▬ ▬▬
नगर के एक स्कूल में प्रस्तुति देते विद्यार्थी।
▬▬ ▬▬▬ ▬ ▬▬▬▬ ▬▬ ▬▬▬ ▬▬ ▬ ▬▬▬ ▬▬▬▬ ▬▬ ▬ ▬▬▬ ▬▬ ▬▬ ▬▬▬ ▬ ▬▬▬▬ ▬▬ ▬▬▬ ▬▬ ▬ ▬▬▬ ▬▬▬▬ ▬▬ ▬ ▬▬▬ ▬▬ ▬▬ ▬▬▬ ▬ ▬▬▬▬ ▬▬ ▬▬▬ ▬▬ ▬ ▬▬▬ ▬▬▬▬ ▬▬ ▬ ▬▬▬ ▬▬ ▬▬ ▬▬▬ ▬ ▬▬▬▬ ▬▬ ▬▬▬ ▬▬ ▬ ▬▬▬ ▬▬▬▬ ▬▬ ▬ ▬▬▬ ▬▬ ▬▬ ▬▬▬ ▬ ▬▬▬▬ ▬▬ ▬▬▬ ▬▬ ▬ ▬▬▬ ▬▬▬▬ ▬▬ ▬ ▬▬▬ ▬▬ ▬▬ ▬▬▬ ▬ ▬▬▬▬ ▬▬ ▬▬▬ ▬▬ ▬ ▬▬▬ ▬▬▬▬ ▬▬ ▬ ▬▬▬ ▬▬ ▬▬ ▬▬▬ ▬ ▬▬▬▬ ▬▬ ▬▬▬ ▬▬ ▬ ▬▬▬ ▬▬▬▬ ▬▬ ▬ ▬▬▬ ▬▬ ▬▬ ▬▬▬ ▬ ▬▬▬▬ ▬▬ ▬▬▬ ▬▬ ▬ ▬▬▬ ▬▬▬▬ ▬▬ ▬ ▬▬▬ ▬▬ ▬▬ ▬▬▬ ▬ ▬▬▬▬ ▬▬ ▬▬▬ ▬▬ ▬ ▬▬▬ ▬▬▬▬ ▬▬ ▬ ▬▬▬ ▬▬ ▬▬ ▬▬▬ ▬ ▬▬▬▬ ▬▬ ▬▬▬ ▬▬ ▬ ▬▬▬ ▬▬▬▬ ▬▬ ▬ ▬▬▬ ▬▬ ▬▬ ▬▬▬ ▬ ▬▬▬▬ ▬▬ ▬▬▬ ▬▬ ▬ ▬▬▬ ▬▬▬▬ ▬▬ ▬ ▬▬▬ ▬▬ ▬▬ ▬▬▬ ▬ ▬▬▬▬ ▬▬ ▬▬▬ ▬▬ ▬ ▬▬▬ ▬▬▬▬ ▬▬ ▬ ▬▬▬ ▬▬ ▬▬ ▬▬▬ ▬ ▬▬▬▬ ▬▬ ▬▬▬ ▬▬ ▬ ▬▬▬ ▬▬▬▬ ▬▬ ▬ ▬▬▬ ▬▬ ▬▬ ▬▬▬ ▬ ▬▬▬▬ ▬▬ ▬▬▬ ▬▬ ▬ ▬▬▬ ▬▬▬▬ ▬▬ ▬ ▬▬▬ ▬▬ ▬▬ ▬▬▬ ▬ ▬▬▬▬ ▬▬ ▬▬▬ ▬▬ ▬ ▬▬▬ ▬▬▬▬ ▬▬ ▬ ▬▬▬ ▬▬ ▬▬ ▬▬▬ ▬ ▬▬▬▬ ▬▬ ▬▬▬ ▬▬ ▬ ▬▬▬ ▬▬▬▬ ▬▬ ▬ ▬▬▬ ▬▬ ▬▬ ▬▬▬ ▬ ▬▬▬▬ ▬▬ ▬▬▬ ▬▬ ▬ ▬▬▬ ▬▬▬▬ ▬▬ ▬ ▬▬▬ ▬▬ ▬▬ ▬▬▬ ▬ ▬▬▬▬ ▬▬ ▬▬▬ ▬▬ ▬ ▬▬▬ ▬▬▬▬ ▬▬ ▬ ▬▬▬ ▬▬ ▬▬ ▬▬▬ ▬ ▬▬▬▬ ▬▬ ▬▬▬ ▬▬ ▬ ▬▬▬ ▬▬▬▬ ▬▬ ▬ ▬▬▬ ▬▬ ▬▬ ▬▬▬ ▬ ▬▬▬▬ ▬▬ ▬▬▬ ▬▬ ▬ ▬▬▬ ▬▬▬▬ ▬▬ ▬ ▬▬▬ ▬▬ ▬▬ ▬▬▬ ▬ ▬▬▬▬ ▬▬ ▬▬▬ ▬▬ ▬ ▬▬▬ ▬▬▬▬ ▬▬ ▬ ▬▬▬ ▬▬ ▬▬ ▬▬▬ ▬ ▬▬▬▬ ▬▬ ▬▬▬ ▬▬ ▬ ▬▬▬ ▬▬▬▬ ▬▬ ▬ ▬▬▬ ▬▬ ▬▬ ▬▬▬ ▬ ▬▬▬▬ ▬▬ ▬▬▬ ▬▬ ▬ ▬▬▬ ▬▬▬▬ ▬▬ ▬ ▬▬▬ ▬▬ ▬▬ ▬▬▬ ▬ ▬▬▬▬ ▬▬ ▬▬▬ ▬▬ ▬ ▬▬▬ ▬▬▬▬ ▬▬ ▬ ▬▬▬ ▬▬ ▬▬ ▬▬▬ ▬ ▬▬▬▬ ▬▬ ▬▬▬ ▬▬ ▬ ▬▬▬ ▬▬▬▬ ▬▬ ▬ ▬▬▬ ▬▬ ▬▬ ▬▬▬ ▬ ▬▬▬▬ ▬▬ ▬▬▬ ▬▬ ▬ ▬▬▬ ▬▬▬▬ ▬▬ ▬ ▬▬▬ ▬▬ ▬▬ ▬▬▬ ▬ ▬▬▬▬ ▬▬ ▬▬▬ ▬▬ ▬ ▬▬▬ ▬▬▬▬ ▬▬ ▬ ▬▬▬ ▬▬ ▬▬ ▬▬▬ ▬ ▬▬▬▬ ▬▬ ▬▬▬ ▬▬ ▬ ▬▬▬ ▬▬▬▬ ▬▬ ▬ ▬▬▬ ▬▬ ▬▬ ▬▬▬ ▬ ▬▬▬▬ ▬▬ ▬▬▬ ▬▬ ▬ ▬▬▬ ▬▬▬▬ ▬▬ ▬ ▬▬▬ ▬▬ ▬▬ ▬▬▬ ▬ ▬▬▬▬ ▬▬ ▬▬▬ ▬▬ ▬ ▬▬▬ ▬▬▬▬ ▬▬ ▬ ▬▬▬ ▬▬ ▬▬ ▬▬▬ ▬ ▬▬▬▬ ▬▬ ▬▬▬ ▬▬ ▬ ▬▬▬ ▬▬▬▬ ▬▬ ▬ ▬▬▬ ▬▬ ▬▬ ▬▬▬ ▬ ▬▬▬▬ ▬▬ ▬▬▬ ▬▬ ▬ ▬▬▬ ▬▬▬▬ ▬▬ ▬ ▬▬▬ ▬▬ ▬▬ ▬▬▬ ▬ ▬▬▬▬ ▬▬ ▬▬▬ ▬▬ ▬ ▬▬▬ ▬▬▬▬ ▬▬ ▬ ▬▬▬ ▬▬ ▬▬ ▬▬▬ ▬ ▬▬▬▬ ▬▬ ▬▬▬ ▬▬ ▬ ▬▬▬ ▬▬▬▬ ▬▬ ▬ ▬▬▬ ▬▬ ▬▬ ▬▬▬ ▬ ▬▬▬▬ ▬▬ ▬▬▬ ▬▬ ▬ ▬▬▬ ▬▬▬▬ ▬▬ ▬ ▬▬▬ ▬▬ ▬▬ ▬▬▬ ▬ ▬▬▬▬ ▬▬ ▬▬▬ ▬▬ ▬ ▬▬▬ ▬▬▬▬ ▬▬ ▬ ▬▬▬ ▬▬ ▬▬ ▬▬▬ ▬ ▬▬▬▬ ▬▬ ▬▬▬ ▬▬ ▬ ▬▬▬ ▬▬▬▬ ▬▬ ▬ ▬▬▬ ▬▬ ▬▬ ▬▬▬ ▬ ▬▬▬▬ ▬▬ ▬▬▬ ▬▬ ▬ ▬▬▬ ▬▬▬▬ ▬▬ ▬ ▬▬▬ ▬▬ ▬▬ ▬▬▬ ▬ ▬▬▬▬ ▬▬ ▬▬▬ ▬▬ ▬ ▬▬▬ ▬▬▬▬ ▬▬ ▬ ▬▬▬ ▬▬ ▬▬ ▬▬▬ ▬ ▬▬▬▬ ▬▬ ▬▬▬ ▬▬ ▬ ▬▬▬ ▬▬▬▬ ▬▬ ▬ ▬▬▬ ▬▬ ▬▬ ▬▬▬ ▬ ▬▬▬▬ ▬▬ ▬▬▬ ▬▬ ▬ ▬▬▬ ▬▬▬▬ ▬▬ ▬ ▬▬▬ ▬▬ ▬▬ ▬▬▬ ▬ ▬▬▬▬ ▬▬ ▬▬▬ ▬▬ ▬ ▬▬▬ ▬▬▬▬ ▬▬ ▬ ▬▬▬ ▬▬ ▬▬ ▬▬▬ ▬ ▬▬▬▬ ▬▬ ▬▬▬ ▬▬ ▬ ▬▬▬ ▬▬▬▬ ▬▬ ▬ ▬▬▬ ▬▬ ▬▬ ▬▬▬ ▬ ▬▬▬▬ ▬▬ ▬▬▬ ▬▬ ▬ ▬▬▬ ▬▬▬▬ ▬▬ ▬ ▬▬▬ ▬▬ ▬▬ ▬▬▬ ▬ ▬▬▬▬ ▬▬ ▬▬▬ ▬▬ ▬ ▬▬▬ ▬▬▬▬ ▬▬ ▬ ▬▬▬ ▬▬ ▬▬ ▬▬▬ ▬ ▬▬▬▬ ▬▬ ▬▬▬ ▬▬ ▬ ▬▬▬ ▬▬▬▬ ▬▬ ▬ ▬▬▬ ▬▬ ▬▬ ▬▬▬ ▬ ▬▬▬▬ ▬▬ ▬▬▬ ▬▬ ▬ ▬▬▬ ▬▬▬▬ ▬▬ ▬ ▬▬▬ ▬▬ ▬▬ ▬▬▬ ▬ ▬▬▬▬ ▬▬ ▬▬▬ ▬▬ ▬ ▬▬▬ ▬▬▬▬ ▬▬ ▬ ▬▬▬ ▬▬ ▬▬ ▬▬▬ ▬ ▬▬▬▬ ▬▬ ▬▬▬ ▬▬ ▬ ▬▬▬ ▬▬▬▬ ▬▬ ▬ ▬▬▬ ▬▬ ▬▬ ▬▬▬ ▬ ▬▬▬▬ ▬▬ ▬▬▬ ▬▬ ▬ ▬▬▬ ▬▬▬▬ ▬▬ ▬ ▬▬▬ ▬▬ ▬▬ ▬▬▬ ▬ ▬▬▬▬ ▬▬ ▬▬▬ ▬▬ ▬ ▬▬▬ ▬▬▬▬ ▬▬ ▬ ▬▬▬ ▬▬ ▬▬ ▬▬▬ ▬ ▬▬▬▬ ▬▬ ▬▬▬ ▬▬ ▬ ▬▬▬ ▬▬▬▬ ▬▬ ▬ ▬▬▬ ▬▬ ▬▬ ▬▬▬ ▬ ▬▬▬▬ ▬▬ ▬▬▬ ▬▬ ▬ ▬▬▬ ▬▬▬▬ ▬▬ ▬ ▬▬▬ ▬▬ ▬▬ ▬▬▬ ▬ ▬▬▬▬ ▬▬ ▬▬▬ ▬▬ ▬ ▬▬▬ ▬▬▬▬ ▬▬ ▬ ▬▬▬ ▬▬ ▬▬ ▬▬▬ ▬ ▬▬▬▬ ▬▬ ▬▬▬ ▬▬ ▬ ▬▬▬ ▬▬▬▬ ▬▬ ▬ ▬▬▬ ▬▬ ▬▬ ▬▬▬ ▬ ▬▬▬▬ ▬▬ ▬▬▬ ▬▬ ▬ ▬▬▬ ▬▬▬▬ ▬▬ ▬ ▬▬▬ ▬▬ ▬▬ ▬▬▬ ▬ ▬▬▬▬ ▬▬ ▬▬▬ ▬▬ ▬ ▬▬▬ ▬▬▬▬ ▬▬ ▬ ▬▬▬ ▬▬ ▬▬ ▬▬▬ ▬ ▬▬▬▬ ▬▬ ▬▬▬ ▬▬ ▬ ▬▬▬ ▬▬▬▬ ▬▬ ▬ ▬▬▬ ▬▬ ▬▬ ▬▬▬ ▬ ▬▬▬▬ ▬▬ ▬▬▬ ▬▬ ▬ ▬▬▬ ▬▬▬▬ ▬▬ ▬ ▬▬▬ ▬▬ ▬▬ ▬▬▬ ▬ ▬▬▬▬ ▬▬ ▬▬▬ ▬▬ ▬ ▬▬▬ ▬▬▬▬ ▬▬ ▬ ▬▬▬ ▬▬
▬▬ ▬▬▬ ▬ ▬▬▬▬ ▬▬ ▬▬▬ ▬▬ ▬ ▬▬▬ ▬▬▬▬ ▬▬ ▬ ▬▬▬ ▬▬ ▬▬ ▬▬▬ ▬ ▬▬▬▬ ▬▬ ▬▬▬ ▬▬ ▬ ▬▬▬ ▬▬▬▬ ▬▬ ▬ ▬▬▬ ▬▬ ▬▬ ▬▬▬ ▬ ▬▬▬▬ ▬▬ ▬▬▬ ▬▬ ▬ ▬▬▬ ▬▬▬▬ ▬▬ ▬ ▬▬▬ ▬▬ ▬▬ ▬▬▬ ▬ ▬▬▬▬ ▬▬ ▬▬▬ ▬▬ ▬ ▬▬▬ ▬▬▬▬ ▬▬ ▬ ▬▬▬ ▬▬ ▬▬ ▬▬▬ ▬ ▬▬▬▬ ▬▬ ▬▬▬ ▬▬ ▬ ▬▬▬ ▬▬▬▬ ▬▬ ▬ ▬▬▬ ▬▬ ▬▬ ▬▬▬ ▬ ▬▬▬▬ ▬▬ ▬▬▬ ▬▬ ▬ ▬▬▬ ▬▬▬▬ ▬▬ ▬ ▬▬▬ ▬▬ ▬▬ ▬▬▬ ▬ ▬▬▬▬ ▬▬ ▬▬▬ ▬▬ ▬ ▬▬▬ ▬▬▬▬ ▬▬ ▬ ▬▬▬ ▬▬ ▬▬ ▬▬▬ ▬ ▬▬▬▬ ▬▬ ▬▬▬ ▬▬ ▬ ▬▬▬ ▬▬▬▬ ▬▬ ▬ ▬▬▬ ▬▬ ▬▬ ▬▬▬ ▬ ▬▬▬▬ ▬▬ ▬▬▬ ▬▬ ▬ ▬▬▬ ▬▬▬▬ ▬▬ ▬ ▬▬▬ ▬▬ ▬▬ ▬▬▬ ▬ ▬▬▬▬ ▬▬ ▬▬▬ ▬▬ ▬ ▬▬▬ ▬▬▬▬ ▬▬ ▬ ▬▬▬ ▬▬ ▬▬ ▬▬▬ ▬ ▬▬▬▬ ▬▬ ▬▬▬ ▬▬ ▬ ▬▬▬ ▬▬▬▬ ▬▬ ▬ ▬▬▬ ▬▬ ▬▬ ▬▬▬ ▬ ▬▬▬▬ ▬▬ ▬▬▬ ▬▬ ▬ ▬▬▬ ▬▬▬▬ ▬▬ ▬ ▬▬▬ ▬▬ ▬▬ ▬▬▬ ▬ ▬▬▬▬ ▬▬ ▬▬▬ ▬▬ ▬ ▬▬▬ ▬▬▬▬ ▬▬ ▬ ▬▬▬ ▬▬ ▬▬ ▬▬▬ ▬ ▬▬▬▬ ▬▬ ▬▬▬ ▬▬ ▬ ▬▬▬ ▬▬▬▬ ▬▬ ▬ ▬▬▬ ▬▬ ▬▬ ▬▬▬ ▬ ▬▬▬▬ ▬▬ ▬▬▬ ▬▬ ▬ ▬▬▬ ▬▬▬▬ ▬▬ ▬ ▬▬▬ ▬▬ ▬▬ ▬▬▬ ▬ ▬▬▬▬ ▬▬ ▬▬▬ ▬▬ ▬ ▬▬▬ ▬▬▬▬ ▬▬ ▬ ▬▬▬ ▬▬ ▬▬ ▬▬▬ ▬ ▬▬▬▬ ▬▬ ▬▬▬ ▬▬ ▬ ▬▬▬ ▬▬▬▬ ▬▬ ▬ ▬▬▬ ▬▬ ▬▬ ▬▬▬ ▬ ▬▬▬▬ ▬▬ ▬▬▬ ▬▬ ▬ ▬▬▬ ▬▬▬▬ ▬▬ ▬ ▬▬▬ ▬▬ ▬▬ ▬▬▬ ▬ ▬▬▬▬ ▬▬ ▬▬▬ ▬▬ ▬ ▬▬▬ ▬▬▬▬ ▬▬ ▬ ▬▬▬ ▬▬ ▬▬ ▬▬▬ ▬ ▬▬▬▬ ▬▬ ▬▬▬ ▬▬ ▬ ▬▬▬ ▬▬▬▬ ▬▬ ▬ ▬▬▬ ▬▬ ▬▬ ▬▬▬ ▬ ▬▬▬▬ ▬▬ ▬▬▬ ▬▬ ▬ ▬▬▬ ▬▬▬▬ ▬▬ ▬ ▬▬▬ ▬▬ ▬▬ ▬▬▬ ▬ ▬▬▬▬ ▬▬ ▬▬▬ ▬▬ ▬ ▬▬▬ ▬▬▬▬ ▬▬ ▬ ▬▬▬ ▬▬ ▬▬ ▬▬▬ ▬ ▬▬▬▬ ▬▬ ▬▬▬ ▬▬ ▬ ▬▬▬ ▬▬▬▬ ▬▬ ▬ ▬▬▬ ▬▬ ▬▬ ▬▬▬ ▬ ▬▬▬▬ ▬▬ ▬▬▬ ▬▬ ▬ ▬▬▬ ▬▬▬▬ ▬▬ ▬ ▬▬▬ ▬▬ ▬▬ ▬▬▬ ▬ ▬▬▬▬ ▬▬ ▬▬▬ ▬▬ ▬ ▬▬▬ ▬▬▬▬ ▬▬ ▬ ▬▬▬ ▬▬ ▬▬ ▬▬▬ ▬ ▬▬▬▬ ▬▬ ▬▬▬ ▬▬ ▬ ▬▬▬ ▬▬▬▬ ▬▬ ▬ ▬▬▬ ▬▬ ▬▬ ▬▬▬ ▬ ▬▬▬▬ ▬▬ ▬▬▬ ▬▬ ▬ ▬▬▬ ▬▬▬▬ ▬▬ ▬ ▬▬▬ ▬▬ ▬▬ ▬▬▬ ▬ ▬▬▬▬ ▬▬ ▬▬▬ ▬▬ ▬ ▬▬▬ ▬▬▬▬ ▬▬ ▬ ▬▬▬ ▬▬ ▬▬ ▬▬▬ ▬ ▬▬▬▬ ▬▬ ▬▬▬ ▬▬ ▬ ▬▬▬ ▬▬▬▬ ▬▬ ▬ ▬▬▬ ▬▬ ▬▬ ▬▬▬ ▬ ▬▬▬▬ ▬▬ ▬▬▬ ▬▬ ▬ ▬▬▬ ▬▬▬▬ ▬▬ ▬ ▬▬▬ ▬▬ ▬▬ ▬▬▬ ▬ ▬▬▬▬ ▬▬ ▬▬▬ ▬▬ ▬ ▬▬▬ ▬▬▬▬ ▬▬ ▬ ▬▬▬ ▬▬ ▬▬ ▬▬▬ ▬ ▬▬▬▬ ▬▬ ▬▬▬ ▬▬ ▬ ▬▬▬ ▬▬▬▬ ▬▬ ▬ ▬▬▬ ▬▬ ▬▬ ▬▬▬ ▬ ▬▬▬▬ ▬▬ ▬▬▬ ▬▬ ▬ ▬▬▬ ▬▬▬▬ ▬▬ ▬ ▬▬▬ ▬▬ ▬▬ ▬▬▬ ▬ ▬▬▬▬ ▬▬ ▬▬▬ ▬▬ ▬ ▬▬▬ ▬▬▬▬ ▬▬ ▬ ▬▬▬ ▬▬ ▬▬ ▬▬▬ ▬ ▬▬▬▬ ▬▬ ▬▬▬ ▬▬ ▬ ▬▬▬ ▬▬▬▬ ▬▬ ▬ ▬▬▬ ▬▬ ▬▬ ▬▬▬ ▬ ▬▬▬▬ ▬▬ ▬▬▬ ▬▬ ▬ ▬▬▬ ▬▬▬▬ ▬▬ ▬ ▬▬▬ ▬▬ ▬▬ ▬▬▬ ▬ ▬▬▬▬ ▬▬ ▬▬▬ ▬▬ ▬ ▬▬▬ ▬▬▬▬ ▬▬ ▬ ▬▬▬ ▬▬ ▬▬ ▬▬▬ ▬ ▬▬▬▬ ▬▬ ▬▬▬ ▬▬ ▬ ▬▬▬ ▬▬▬▬ ▬▬ ▬ ▬▬▬ ▬▬ ▬▬ ▬▬▬ ▬ ▬▬▬▬ ▬▬ ▬▬▬ ▬▬ ▬ ▬▬▬ ▬▬▬▬ ▬▬ ▬ ▬▬▬ ▬▬ ▬▬ ▬▬▬ ▬ ▬▬▬▬ ▬▬ ▬▬▬ ▬▬ ▬ ▬▬▬ ▬▬▬▬ ▬▬ ▬ ▬▬▬ ▬▬ ▬▬ ▬▬▬ ▬ ▬▬▬▬ ▬▬ ▬▬▬ ▬▬ ▬ ▬▬▬ ▬▬▬▬ ▬▬ ▬ ▬▬▬ ▬▬ ▬▬ ▬▬▬ ▬ ▬▬▬▬ ▬▬ ▬▬▬ ▬▬ ▬ ▬▬▬ ▬▬▬▬ ▬▬ ▬ ▬▬▬ ▬▬ ▬▬ ▬▬▬ ▬ ▬▬▬▬ ▬▬ ▬▬▬ ▬▬ ▬ ▬▬▬ ▬▬▬▬ ▬▬ ▬ ▬▬▬ ▬▬ ▬▬ ▬▬▬ ▬ ▬▬▬▬ ▬▬ ▬▬▬ ▬▬ ▬ ▬▬▬ ▬▬▬▬ ▬▬ ▬ ▬▬▬ ▬▬ ▬▬ ▬▬▬ ▬ ▬▬▬▬ ▬▬ ▬▬▬ ▬▬ ▬ ▬▬▬ ▬▬▬▬ ▬▬ ▬ ▬▬▬ ▬▬ ▬▬ ▬▬▬ ▬ ▬▬▬▬ ▬▬ ▬▬▬ ▬▬ ▬ ▬▬▬ ▬▬▬▬ ▬▬ ▬ ▬▬▬ ▬▬ ▬▬ ▬▬▬ ▬ ▬▬▬▬ ▬▬ ▬▬▬ ▬▬ ▬ ▬▬▬ ▬▬▬▬ ▬▬ ▬ ▬▬▬ ▬▬ ▬▬ ▬▬▬ ▬ ▬▬▬▬ ▬▬ ▬▬▬ ▬▬ ▬ ▬▬▬ ▬▬▬▬ ▬▬ ▬ ▬▬▬ ▬▬ ▬▬ ▬▬▬ ▬ ▬▬▬▬ ▬▬ ▬▬▬ ▬▬ ▬ ▬▬▬ ▬▬▬▬ ▬▬ ▬ ▬▬▬ ▬▬ ▬▬ ▬▬▬ ▬ ▬▬▬▬ ▬▬ ▬▬▬ ▬▬ ▬ ▬▬▬ ▬▬▬▬ ▬▬ ▬ ▬▬▬ ▬▬ ▬▬ ▬▬▬ ▬ ▬▬▬▬ ▬▬ ▬▬▬ ▬▬ ▬ ▬▬▬ ▬▬▬▬ ▬▬ ▬ ▬▬▬ ▬▬ ▬▬ ▬▬▬ ▬ ▬▬▬▬ ▬▬ ▬▬▬ ▬▬ ▬ ▬▬▬ ▬▬▬▬ ▬▬ ▬ ▬▬▬ ▬▬ ▬▬ ▬▬▬ ▬ ▬▬▬▬ ▬▬ ▬▬▬ ▬▬ ▬ ▬▬▬ ▬▬▬▬ ▬▬ ▬ ▬▬▬ ▬▬ ▬▬ ▬▬▬ ▬ ▬▬▬▬ ▬▬ ▬▬▬ ▬▬ ▬ ▬▬▬ ▬▬▬▬ ▬▬ ▬ ▬▬▬ ▬▬ ▬▬ ▬▬▬ ▬ ▬▬▬▬ ▬▬ ▬▬▬ ▬▬ ▬ ▬▬▬ ▬▬▬▬ ▬▬ ▬ ▬▬▬ ▬▬ ▬▬ ▬▬▬ ▬ ▬▬▬▬ ▬▬ ▬▬▬ ▬▬ ▬ ▬▬▬ ▬▬▬▬ ▬▬ ▬ ▬▬▬ ▬▬ ▬▬ ▬▬▬ ▬ ▬▬▬▬ ▬▬ ▬▬▬ ▬▬ ▬ ▬▬▬ ▬▬▬▬ ▬▬ ▬ ▬▬▬ ▬▬ ▬▬ ▬▬▬ ▬ ▬▬▬▬ ▬▬ ▬▬▬ ▬▬ ▬ ▬▬▬ ▬▬▬▬ ▬▬ ▬ ▬▬▬ ▬▬ ▬▬ ▬▬▬ ▬ ▬▬▬▬ ▬▬ ▬▬▬ ▬▬ ▬ ▬▬▬ ▬▬▬▬ ▬▬ ▬ ▬▬▬ ▬▬ ▬▬ ▬▬▬ ▬ ▬▬▬▬ ▬▬ ▬▬▬ ▬▬ ▬ ▬▬▬ ▬▬▬▬ ▬▬ ▬ ▬▬▬ ▬▬
▬▬ ▬▬▬ ▬ ▬▬▬▬ ▬▬ ▬▬▬ ▬▬ ▬ ▬▬▬ ▬▬▬▬ ▬▬ ▬ ▬▬▬ ▬▬ ▬▬ ▬▬▬ ▬ ▬▬▬▬ ▬▬ ▬▬▬ ▬▬ ▬ ▬▬▬ ▬▬▬▬ ▬▬ ▬ ▬▬▬ ▬▬ ▬▬ ▬▬▬ ▬ ▬▬▬▬ ▬▬ ▬▬▬ ▬▬ ▬ ▬▬▬ ▬▬▬▬ ▬▬ ▬ ▬▬▬ ▬▬ ▬▬ ▬▬▬ ▬ ▬▬▬▬ ▬▬ ▬▬▬ ▬▬ ▬ ▬▬▬ ▬▬▬▬ ▬▬ ▬ ▬▬▬ ▬▬ ▬▬ ▬▬▬ ▬ ▬▬▬▬ ▬▬ ▬▬▬ ▬▬ ▬ ▬▬▬ ▬▬▬▬ ▬▬ ▬ ▬▬▬ ▬▬ ▬▬ ▬▬▬ ▬ ▬▬▬▬ ▬▬ ▬▬▬ ▬▬ ▬ ▬▬▬ ▬▬▬▬ ▬▬ ▬ ▬▬▬ ▬▬ ▬▬ ▬▬▬ ▬ ▬▬▬▬ ▬▬ ▬▬▬ ▬▬ ▬ ▬▬▬ ▬▬▬▬ ▬▬ ▬ ▬▬▬ ▬▬ ▬▬ ▬▬▬ ▬ ▬▬▬▬ ▬▬ ▬▬▬ ▬▬ ▬ ▬▬▬ ▬▬▬▬ ▬▬ ▬ ▬▬▬ ▬▬ ▬▬ ▬▬▬ ▬ ▬▬▬▬ ▬▬ ▬▬▬ ▬▬ ▬ ▬▬▬ ▬▬▬▬ ▬▬ ▬ ▬▬▬ ▬▬ ▬▬ ▬▬▬ ▬ ▬▬▬▬ ▬▬ ▬▬▬ ▬▬ ▬ ▬▬▬ ▬▬▬▬ ▬▬ ▬ ▬▬▬ ▬▬ ▬▬ ▬▬▬ ▬ ▬▬▬▬ ▬▬ ▬▬▬ ▬▬ ▬ ▬▬▬ ▬▬▬▬ ▬▬ ▬ ▬▬▬ ▬▬ ▬▬ ▬▬▬ ▬ ▬▬▬▬ ▬▬ ▬▬▬ ▬▬ ▬ ▬▬▬ ▬▬▬▬ ▬▬ ▬ ▬▬▬ ▬▬ ▬▬ ▬▬▬ ▬ ▬▬▬▬ ▬▬ ▬▬▬ ▬▬ ▬ ▬▬▬ ▬▬▬▬ ▬▬ ▬ ▬▬▬ ▬▬ ▬▬ ▬▬▬ ▬ ▬▬▬▬ ▬▬ ▬▬▬ ▬▬ ▬ ▬▬▬ ▬▬▬▬ ▬▬ ▬ ▬▬▬ ▬▬ ▬▬ ▬▬▬ ▬ ▬▬▬▬ ▬▬ ▬▬▬ ▬▬ ▬ ▬▬▬ ▬▬▬▬ ▬▬ ▬ ▬▬▬ ▬▬ ▬▬ ▬▬▬ ▬ ▬▬▬▬ ▬▬ ▬▬▬ ▬▬ ▬ ▬▬▬ ▬▬▬▬ ▬▬ ▬ ▬▬▬ ▬▬ ▬▬ ▬▬▬ ▬ ▬▬▬▬ ▬▬ ▬▬▬ ▬▬ ▬ ▬▬▬ ▬▬▬▬ ▬▬ ▬ ▬▬▬ ▬▬ ▬▬ ▬▬▬ ▬ ▬▬▬▬ ▬▬ ▬▬▬ ▬▬ ▬ ▬▬▬ ▬▬▬▬ ▬▬ ▬ ▬▬▬ ▬▬ ▬▬ ▬▬▬ ▬ ▬▬▬▬ ▬▬ ▬▬▬ ▬▬ ▬ ▬▬▬ ▬▬▬▬ ▬▬ ▬ ▬▬▬ ▬▬ ▬▬ ▬▬▬ ▬ ▬▬▬▬ ▬▬ ▬▬▬ ▬▬ ▬ ▬▬▬ ▬▬▬▬ ▬▬ ▬ ▬▬▬ ▬▬ ▬▬ ▬▬▬ ▬ ▬▬▬▬ ▬▬ ▬▬▬ ▬▬ ▬ ▬▬▬ ▬▬▬▬ ▬▬ ▬ ▬▬▬ ▬▬ ▬▬ ▬▬▬ ▬ ▬▬▬▬ ▬▬ ▬▬▬ ▬▬ ▬ ▬▬▬ ▬▬▬▬ ▬▬ ▬ ▬▬▬ ▬▬ ▬▬ ▬▬▬ ▬ ▬▬▬▬ ▬▬ ▬▬▬ ▬▬ ▬ ▬▬▬ ▬▬▬▬ ▬▬ ▬ ▬▬▬ ▬▬ ▬▬ ▬▬▬ ▬ ▬▬▬▬ ▬▬ ▬▬▬ ▬▬ ▬ ▬▬▬ ▬▬▬▬ ▬▬ ▬ ▬▬▬ ▬▬ ▬▬ ▬▬▬ ▬ ▬▬▬▬ ▬▬ ▬▬▬ ▬▬ ▬ ▬▬▬ ▬▬▬▬ ▬▬ ▬ ▬▬▬ ▬▬ ▬▬ ▬▬▬ ▬ ▬▬▬▬ ▬▬ ▬▬▬ ▬▬ ▬ ▬▬▬ ▬▬▬▬ ▬▬ ▬ ▬▬▬ ▬▬ ▬▬ ▬▬▬ ▬ ▬▬▬▬ ▬▬ ▬▬▬ ▬▬ ▬ ▬▬▬ ▬▬▬▬ ▬▬ ▬ ▬▬▬ ▬▬ ▬▬ ▬▬▬ ▬ ▬▬▬▬ ▬▬ ▬▬▬ ▬▬ ▬ ▬▬▬ ▬▬▬▬ ▬▬ ▬ ▬▬▬ ▬▬ ▬▬ ▬▬▬ ▬ ▬▬▬▬ ▬▬ ▬▬▬ ▬▬ ▬ ▬▬▬ ▬▬▬▬ ▬▬ ▬ ▬▬▬ ▬▬ ▬▬ ▬▬▬ ▬ ▬▬▬▬ ▬▬ ▬▬▬ ▬▬ ▬ ▬▬▬ ▬▬▬▬ ▬▬ ▬ ▬▬▬ ▬▬ ▬▬ ▬▬▬ ▬ ▬▬▬▬ ▬▬ ▬▬▬ ▬▬ ▬ ▬▬▬ ▬▬▬▬ ▬▬ ▬ ▬▬▬ ▬▬ ▬▬ ▬▬▬ ▬ ▬▬▬▬ ▬▬ ▬▬▬ ▬▬ ▬ ▬▬▬ ▬▬▬▬ ▬▬ ▬ ▬▬▬ ▬▬ ▬▬ ▬▬▬ ▬ ▬▬▬▬ ▬▬ ▬▬▬ ▬▬ ▬ ▬▬▬ ▬▬▬▬ ▬▬ ▬ ▬▬▬ ▬▬ ▬▬ ▬▬▬ ▬ ▬▬▬▬ ▬▬ ▬▬▬ ▬▬ ▬ ▬▬▬ ▬▬▬▬ ▬▬ ▬ ▬▬▬ ▬▬ ▬▬ ▬▬▬ ▬ ▬▬▬▬ ▬▬ ▬▬▬ ▬▬ ▬ ▬▬▬ ▬▬▬▬ ▬▬ ▬ ▬▬▬ ▬▬ ▬▬ ▬▬▬ ▬ ▬▬▬▬ ▬▬ ▬▬▬ ▬▬ ▬ ▬▬▬ ▬▬▬▬ ▬▬ ▬ ▬▬▬ ▬▬ ▬▬ ▬▬▬ ▬ ▬▬▬▬ ▬▬ ▬▬▬ ▬▬ ▬ ▬▬▬ ▬▬▬▬ ▬▬ ▬ ▬▬▬ ▬▬ ▬▬ ▬▬▬ ▬ ▬▬▬▬ ▬▬ ▬▬▬ ▬▬ ▬ ▬▬▬ ▬▬▬▬ ▬▬ ▬ ▬▬▬ ▬▬ ▬▬ ▬▬▬ ▬ ▬▬▬▬ ▬▬ ▬▬▬ ▬▬ ▬ ▬▬▬ ▬▬▬▬ ▬▬ ▬ ▬▬▬ ▬▬ ▬▬ ▬▬▬ ▬ ▬▬▬▬ ▬▬ ▬▬▬ ▬▬ ▬ ▬▬▬ ▬▬▬▬ ▬▬ ▬ ▬▬▬ ▬▬ ▬▬ ▬▬▬ ▬ ▬▬▬▬ ▬▬ ▬▬▬ ▬▬ ▬ ▬▬▬ ▬▬▬▬ ▬▬ ▬ ▬▬▬ ▬▬ ▬▬ ▬▬▬ ▬ ▬▬▬▬ ▬▬ ▬▬▬ ▬▬ ▬ ▬▬▬ ▬▬▬▬ ▬▬ ▬ ▬▬▬ ▬▬ ▬▬ ▬▬▬ ▬ ▬▬▬▬ ▬▬ ▬▬▬ ▬▬ ▬ ▬▬▬ ▬▬▬▬ ▬▬ ▬ ▬▬▬ ▬▬ ▬▬ ▬▬▬ ▬ ▬▬▬▬ ▬▬ ▬▬▬ ▬▬ ▬ ▬▬▬ ▬▬▬▬ ▬▬ ▬ ▬▬▬ ▬▬ ▬▬ ▬▬▬ ▬ ▬▬▬▬ ▬▬ ▬▬▬ ▬▬ ▬ ▬▬▬ ▬▬▬▬ ▬▬ ▬ ▬▬▬ ▬▬ ▬▬ ▬▬▬ ▬ ▬▬▬▬ ▬▬ ▬▬▬ ▬▬ ▬ ▬▬▬ ▬▬▬▬ ▬▬ ▬ ▬▬▬ ▬▬ ▬▬ ▬▬▬ ▬ ▬▬▬▬ ▬▬ ▬▬▬ ▬▬ ▬ ▬▬▬ ▬▬▬▬ ▬▬ ▬ ▬▬▬ ▬▬ ▬▬ ▬▬▬ ▬ ▬▬▬▬ ▬▬ ▬▬▬ ▬▬ ▬ ▬▬▬ ▬▬▬▬ ▬▬ ▬ ▬▬▬ ▬▬ ▬▬ ▬▬▬ ▬ ▬▬▬▬ ▬▬ ▬▬▬ ▬▬ ▬ ▬▬▬ ▬▬▬▬ ▬▬ ▬ ▬▬▬ ▬▬ ▬▬ ▬▬▬ ▬ ▬▬▬▬ ▬▬ ▬▬▬ ▬▬ ▬ ▬▬▬ ▬▬▬▬ ▬▬ ▬ ▬▬▬ ▬▬ ▬▬ ▬▬▬ ▬ ▬▬▬▬ ▬▬ ▬▬▬ ▬▬ ▬ ▬▬▬ ▬▬▬▬ ▬▬ ▬ ▬▬▬ ▬▬ ▬▬ ▬▬▬ ▬ ▬▬▬▬ ▬▬ ▬▬▬ ▬▬ ▬ ▬▬▬ ▬▬▬▬ ▬▬ ▬ ▬▬▬ ▬▬ ▬▬ ▬▬▬ ▬ ▬▬▬▬ ▬▬ ▬▬▬ ▬▬ ▬ ▬▬▬ ▬▬▬▬ ▬▬ ▬ ▬▬▬ ▬▬ ▬▬ ▬▬▬ ▬ ▬▬▬▬ ▬▬ ▬▬▬ ▬▬ ▬ ▬▬▬ ▬▬▬▬ ▬▬ ▬ ▬▬▬ ▬▬ ▬▬ ▬▬▬ ▬ ▬▬▬▬ ▬▬ ▬▬▬ ▬▬ ▬ ▬▬▬ ▬▬▬▬ ▬▬ ▬ ▬▬▬ ▬▬ ▬▬ ▬▬▬ ▬ ▬▬▬▬ ▬▬ ▬▬▬ ▬▬ ▬ ▬▬▬ ▬▬▬▬ ▬▬ ▬ ▬▬▬ ▬▬ ▬▬ ▬▬▬ ▬ ▬▬▬▬ ▬▬ ▬▬▬ ▬▬ ▬ ▬▬▬ ▬▬▬▬ ▬▬ ▬ ▬▬▬ ▬▬ ▬▬ ▬▬▬ ▬ ▬▬▬▬ ▬▬ ▬▬▬ ▬▬ ▬ ▬▬▬ ▬▬▬▬ ▬▬ ▬ ▬▬▬ ▬▬ ▬▬ ▬▬▬ ▬ ▬▬▬▬ ▬▬ ▬▬▬ ▬▬ ▬ ▬▬▬ ▬▬▬▬ ▬▬ ▬ ▬▬▬ ▬▬ ▬▬ ▬▬▬ ▬ ▬▬▬▬ ▬▬ ▬▬▬ ▬▬ ▬ ▬▬▬ ▬▬▬▬ ▬▬ ▬ ▬▬▬ ▬▬
▬▬ ▬▬▬ ▬ ▬▬▬▬ ▬▬ ▬▬▬ ▬▬ ▬ ▬▬▬ ▬▬▬▬ ▬▬ ▬ ▬▬▬ ▬▬ ▬▬ ▬▬▬ ▬ ▬▬▬▬ ▬▬ ▬▬▬ ▬▬ ▬ ▬▬▬ ▬▬▬▬ ▬▬ ▬ ▬▬▬ ▬▬ ▬▬ ▬▬▬ ▬ ▬▬▬▬ ▬▬ ▬▬▬ ▬▬ ▬ ▬▬▬ ▬▬▬▬ ▬▬ ▬ ▬▬▬ ▬▬ ▬▬ ▬▬▬ ▬ ▬▬▬▬ ▬▬ ▬▬▬ ▬▬ ▬ ▬▬▬ ▬▬▬▬ ▬▬ ▬ ▬▬▬ ▬▬ ▬▬ ▬▬▬ ▬ ▬▬▬▬ ▬▬ ▬▬▬ ▬▬ ▬ ▬▬▬ ▬▬▬▬ ▬▬ ▬ ▬▬▬ ▬▬ ▬▬ ▬▬▬ ▬ ▬▬▬▬ ▬▬ ▬▬▬ ▬▬ ▬ ▬▬▬ ▬▬▬▬ ▬▬ ▬ ▬▬▬ ▬▬ ▬▬ ▬▬▬ ▬ ▬▬▬▬ ▬▬ ▬▬▬ ▬▬ ▬ ▬▬▬ ▬▬▬▬ ▬▬ ▬ ▬▬▬ ▬▬ ▬▬ ▬▬▬ ▬ ▬▬▬▬ ▬▬ ▬▬▬ ▬▬ ▬ ▬▬▬ ▬▬▬▬ ▬▬ ▬ ▬▬▬ ▬▬ ▬▬ ▬▬▬ ▬ ▬▬▬▬ ▬▬ ▬▬▬ ▬▬ ▬ ▬▬▬ ▬▬▬▬ ▬▬ ▬ ▬▬▬ ▬▬ ▬▬ ▬▬▬ ▬ ▬▬▬▬ ▬▬ ▬▬▬ ▬▬ ▬ ▬▬▬ ▬▬▬▬ ▬▬ ▬ ▬▬▬ ▬▬ ▬▬ ▬▬▬ ▬ ▬▬▬▬ ▬▬ ▬▬▬ ▬▬ ▬ ▬▬▬ ▬▬▬▬ ▬▬ ▬ ▬▬▬ ▬▬ ▬▬ ▬▬▬ ▬ ▬▬▬▬ ▬▬ ▬▬▬ ▬▬ ▬ ▬▬▬ ▬▬▬▬ ▬▬ ▬ ▬▬▬ ▬▬ ▬▬ ▬▬▬ ▬ ▬▬▬▬ ▬▬ ▬▬▬ ▬▬ ▬ ▬▬▬ ▬▬▬▬ ▬▬ ▬ ▬▬▬ ▬▬ ▬▬ ▬▬▬ ▬ ▬▬▬▬ ▬▬ ▬▬▬ ▬▬ ▬ ▬▬▬ ▬▬▬▬ ▬▬ ▬ ▬▬▬ ▬▬ ▬▬ ▬▬▬ ▬ ▬▬▬▬ ▬▬ ▬▬▬ ▬▬ ▬ ▬▬▬ ▬▬▬▬ ▬▬ ▬ ▬▬▬ ▬▬ ▬▬ ▬▬▬ ▬ ▬▬▬▬ ▬▬ ▬▬▬ ▬▬ ▬ ▬▬▬ ▬▬▬▬ ▬▬ ▬ ▬▬▬ ▬▬ ▬▬ ▬▬▬ ▬ ▬▬▬▬ ▬▬ ▬▬▬ ▬▬ ▬ ▬▬▬ ▬▬▬▬ ▬▬ ▬ ▬▬▬ ▬▬ ▬▬ ▬▬▬ ▬ ▬▬▬▬ ▬▬ ▬▬▬ ▬▬ ▬ ▬▬▬ ▬▬▬▬ ▬▬ ▬ ▬▬▬ ▬▬ ▬▬ ▬▬▬ ▬ ▬▬▬▬ ▬▬ ▬▬▬ ▬▬ ▬ ▬▬▬ ▬▬▬▬ ▬▬ ▬ ▬▬▬ ▬▬ ▬▬ ▬▬▬ ▬ ▬▬▬▬ ▬▬ ▬▬▬ ▬▬ ▬ ▬▬▬ ▬▬▬▬ ▬▬ ▬ ▬▬▬ ▬▬ ▬▬ ▬▬▬ ▬ ▬▬▬▬ ▬▬ ▬▬▬ ▬▬ ▬ ▬▬▬ ▬▬▬▬ ▬▬ ▬ ▬▬▬ ▬▬ ▬▬ ▬▬▬ ▬ ▬▬▬▬ ▬▬ ▬▬▬ ▬▬ ▬ ▬▬▬ ▬▬▬▬ ▬▬ ▬ ▬▬▬ ▬▬ ▬▬ ▬▬▬ ▬ ▬▬▬▬ ▬▬ ▬▬▬ ▬▬ ▬ ▬▬▬ ▬▬▬▬ ▬▬ ▬ ▬▬▬ ▬▬ ▬▬ ▬▬▬ ▬ ▬▬▬▬ ▬▬ ▬▬▬ ▬▬ ▬ ▬▬▬ ▬▬▬▬ ▬▬ ▬ ▬▬▬ ▬▬ ▬▬ ▬▬▬ ▬ ▬▬▬▬ ▬▬ ▬▬▬ ▬▬ ▬ ▬▬▬ ▬▬▬▬ ▬▬ ▬ ▬▬▬ ▬▬ ▬▬ ▬▬▬ ▬ ▬▬▬▬ ▬▬ ▬▬▬ ▬▬ ▬ ▬▬▬ ▬▬▬▬ ▬▬ ▬ ▬▬▬ ▬▬ ▬▬ ▬▬▬ ▬ ▬▬▬▬ ▬▬ ▬▬▬ ▬▬ ▬ ▬▬▬ ▬▬▬▬ ▬▬ ▬ ▬▬▬ ▬▬ ▬▬ ▬▬▬ ▬ ▬▬▬▬ ▬▬ ▬▬▬ ▬▬ ▬ ▬▬▬ ▬▬▬▬ ▬▬ ▬ ▬▬▬ ▬▬ ▬▬ ▬▬▬ ▬ ▬▬▬▬ ▬▬ ▬▬▬ ▬▬ ▬ ▬▬▬ ▬▬▬▬ ▬▬ ▬ ▬▬▬ ▬▬ ▬▬ ▬▬▬ ▬ ▬▬▬▬ ▬▬ ▬▬▬ ▬▬ ▬ ▬▬▬ ▬▬▬▬ ▬▬ ▬ ▬▬▬ ▬▬ ▬▬ ▬▬▬ ▬ ▬▬▬▬ ▬▬ ▬▬▬ ▬▬ ▬ ▬▬▬ ▬▬▬▬ ▬▬ ▬ ▬▬▬ ▬▬ ▬▬ ▬▬▬ ▬ ▬▬▬▬ ▬▬ ▬▬▬ ▬▬ ▬ ▬▬▬ ▬▬▬▬ ▬▬ ▬ ▬▬▬ ▬▬ ▬▬ ▬▬▬ ▬ ▬▬▬▬ ▬▬ ▬▬▬ ▬▬ ▬ ▬▬▬ ▬▬▬▬ ▬▬ ▬ ▬▬▬ ▬▬ ▬▬ ▬▬▬ ▬ ▬▬▬▬ ▬▬ ▬▬▬ ▬▬ ▬ ▬▬▬ ▬▬▬▬ ▬▬ ▬ ▬▬▬ ▬▬ ▬▬ ▬▬▬ ▬ ▬▬▬▬ ▬▬ ▬▬▬ ▬▬ ▬ ▬▬▬ ▬▬▬▬ ▬▬ ▬ ▬▬▬ ▬▬ ▬▬ ▬▬▬ ▬ ▬▬▬▬ ▬▬ ▬▬▬ ▬▬ ▬ ▬▬▬ ▬▬▬▬ ▬▬ ▬ ▬▬▬ ▬▬ ▬▬ ▬▬▬ ▬ ▬▬▬▬ ▬▬ ▬▬▬ ▬▬ ▬ ▬▬▬ ▬▬▬▬ ▬▬ ▬ ▬▬▬ ▬▬ ▬▬ ▬▬▬ ▬ ▬▬▬▬ ▬▬ ▬▬▬ ▬▬ ▬ ▬▬▬ ▬▬▬▬ ▬▬ ▬ ▬▬▬ ▬▬ ▬▬ ▬▬▬ ▬ ▬▬▬▬ ▬▬ ▬▬▬ ▬▬ ▬ ▬▬▬ ▬▬▬▬ ▬▬ ▬ ▬▬▬ ▬▬ ▬▬ ▬▬▬ ▬ ▬▬▬▬ ▬▬ ▬▬▬ ▬▬ ▬ ▬▬▬ ▬▬▬▬ ▬▬ ▬ ▬▬▬ ▬▬ ▬▬ ▬▬▬ ▬ ▬▬▬▬ ▬▬ ▬▬▬ ▬▬ ▬ ▬▬▬ ▬▬▬▬ ▬▬ ▬ ▬▬▬ ▬▬ ▬▬ ▬▬▬ ▬ ▬▬▬▬ ▬▬ ▬▬▬ ▬▬ ▬ ▬▬▬ ▬▬▬▬ ▬▬ ▬ ▬▬▬ ▬▬ ▬▬ ▬▬▬ ▬ ▬▬▬▬ ▬▬ ▬▬▬ ▬▬ ▬ ▬▬▬ ▬▬▬▬ ▬▬ ▬ ▬▬▬ ▬▬ ▬▬ ▬▬▬ ▬ ▬▬▬▬ ▬▬ ▬▬▬ ▬▬ ▬ ▬▬▬ ▬▬▬▬ ▬▬ ▬ ▬▬▬ ▬▬ ▬▬ ▬▬▬ ▬ ▬▬▬▬ ▬▬ ▬▬▬ ▬▬ ▬ ▬▬▬ ▬▬▬▬ ▬▬ ▬ ▬▬▬ ▬▬ ▬▬ ▬▬▬ ▬ ▬▬▬▬ ▬▬ ▬▬▬ ▬▬ ▬ ▬▬▬ ▬▬▬▬ ▬▬ ▬ ▬▬▬ ▬▬ ▬▬ ▬▬▬ ▬ ▬▬▬▬ ▬▬ ▬▬▬ ▬▬ ▬ ▬▬▬ ▬▬▬▬ ▬▬ ▬ ▬▬▬ ▬▬ ▬▬ ▬▬▬ ▬ ▬▬▬▬ ▬▬ ▬▬▬ ▬▬ ▬ ▬▬▬ ▬▬▬▬ ▬▬ ▬ ▬▬▬ ▬▬ ▬▬ ▬▬▬ ▬ ▬▬▬▬ ▬▬ ▬▬▬ ▬▬ ▬ ▬▬▬ ▬▬▬▬ ▬▬ ▬ ▬▬▬ ▬▬ ▬▬ ▬▬▬ ▬ ▬▬▬▬ ▬▬ ▬▬▬ ▬▬ ▬ ▬▬▬ ▬▬▬▬ ▬▬ ▬ ▬▬▬ ▬▬ ▬▬ ▬▬▬ ▬ ▬▬▬▬ ▬▬ ▬▬▬ ▬▬ ▬ ▬▬▬ ▬▬▬▬ ▬▬ ▬ ▬▬▬ ▬▬ ▬▬ ▬▬▬ ▬ ▬▬▬▬ ▬▬ ▬▬▬ ▬▬ ▬ ▬▬▬ ▬▬▬▬ ▬▬ ▬ ▬▬▬ ▬▬ ▬▬ ▬▬▬ ▬ ▬▬▬▬ ▬▬ ▬▬▬ ▬▬ ▬ ▬▬▬ ▬▬▬▬ ▬▬ ▬ ▬▬▬ ▬▬ ▬▬ ▬▬▬ ▬ ▬▬▬▬ ▬▬ ▬▬▬ ▬▬ ▬ ▬▬▬ ▬▬▬▬ ▬▬ ▬ ▬▬▬ ▬▬ ▬▬ ▬▬▬ ▬ ▬▬▬▬ ▬▬ ▬▬▬ ▬▬ ▬ ▬▬▬ ▬▬▬▬ ▬▬ ▬ ▬▬▬ ▬▬ ▬▬ ▬▬▬ ▬ ▬▬▬▬ ▬▬ ▬▬▬ ▬▬ ▬ ▬▬▬ ▬▬▬▬ ▬▬ ▬ ▬▬▬ ▬▬ ▬▬ ▬▬▬ ▬ ▬▬▬▬ ▬▬ ▬▬▬ ▬▬ ▬ ▬▬▬ ▬▬▬▬ ▬▬ ▬ ▬▬▬ ▬▬ ▬▬ ▬▬▬ ▬ ▬▬▬▬ ▬▬ ▬▬▬ ▬▬ ▬ ▬▬▬ ▬▬▬▬ ▬▬ ▬ ▬▬▬ ▬▬ ▬▬ ▬▬▬ ▬ ▬▬▬▬ ▬▬ ▬▬▬ ▬▬ ▬ ▬▬▬ ▬▬▬▬ ▬▬ ▬ ▬▬▬ ▬▬ ▬▬ ▬▬▬ ▬ ▬▬▬▬ ▬▬ ▬▬▬ ▬▬ ▬ ▬▬▬ ▬▬▬▬ ▬▬ ▬ ▬▬▬ ▬▬
▬▬ ▬▬▬ ▬ ▬▬▬▬ ▬▬ ▬▬▬ ▬▬ ▬ ▬▬▬ ▬▬▬▬ ▬▬ ▬ ▬▬▬ ▬▬ ▬▬ ▬▬▬ ▬ ▬▬▬▬ ▬▬ ▬▬▬ ▬▬ ▬ ▬▬▬ ▬▬▬▬ ▬▬ ▬ ▬▬▬ ▬▬ ▬▬ ▬▬▬ ▬ ▬▬▬▬ ▬▬ ▬▬▬ ▬▬ ▬ ▬▬▬ ▬▬▬▬ ▬▬ ▬ ▬▬▬ ▬▬ ▬▬ ▬▬▬ ▬ ▬▬▬▬ ▬▬ ▬▬▬ ▬▬ ▬ ▬▬▬ ▬▬▬▬ ▬▬ ▬ ▬▬▬ ▬▬ ▬▬ ▬▬▬ ▬ ▬▬▬▬ ▬▬ ▬▬▬ ▬▬ ▬ ▬▬▬ ▬▬▬▬ ▬▬ ▬ ▬▬▬ ▬▬ ▬▬ ▬▬▬ ▬ ▬▬▬▬ ▬▬ ▬▬▬ ▬▬ ▬ ▬▬▬ ▬▬▬▬ ▬▬ ▬ ▬▬▬ ▬▬ ▬▬ ▬▬▬ ▬ ▬▬▬▬ ▬▬ ▬▬▬ ▬▬ ▬ ▬▬▬ ▬▬▬▬ ▬▬ ▬ ▬▬▬ ▬▬ ▬▬ ▬▬▬ ▬ ▬▬▬▬ ▬▬ ▬▬▬ ▬▬ ▬ ▬▬▬ ▬▬▬▬ ▬▬ ▬ ▬▬▬ ▬▬ ▬▬ ▬▬▬ ▬ ▬▬▬▬ ▬▬ ▬▬▬ ▬▬ ▬ ▬▬▬ ▬▬▬▬ ▬▬ ▬ ▬▬▬ ▬▬ ▬▬ ▬▬▬ ▬ ▬▬▬▬ ▬▬ ▬▬▬ ▬▬ ▬ ▬▬▬ ▬▬▬▬ ▬▬ ▬ ▬▬▬ ▬▬ ▬▬ ▬▬▬ ▬ ▬▬▬▬ ▬▬ ▬▬▬ ▬▬ ▬ ▬▬▬ ▬▬▬▬ ▬▬ ▬ ▬▬▬ ▬▬ ▬▬ ▬▬▬ ▬ ▬▬▬▬ ▬▬ ▬▬▬ ▬▬ ▬ ▬▬▬ ▬▬▬▬ ▬▬ ▬ ▬▬▬ ▬▬ ▬▬ ▬▬▬ ▬ ▬▬▬▬ ▬▬ ▬▬▬ ▬▬ ▬ ▬▬▬ ▬▬▬▬ ▬▬ ▬ ▬▬▬ ▬▬ ▬▬ ▬▬▬ ▬ ▬▬▬▬ ▬▬ ▬▬▬ ▬▬ ▬ ▬▬▬ ▬▬▬▬ ▬▬ ▬ ▬▬▬ ▬▬ ▬▬ ▬▬▬ ▬ ▬▬▬▬ ▬▬ ▬▬▬ ▬▬ ▬ ▬▬▬ ▬▬▬▬ ▬▬ ▬ ▬▬▬ ▬▬ ▬▬ ▬▬▬ ▬ ▬▬▬▬ ▬▬ ▬▬▬ ▬▬ ▬ ▬▬▬ ▬▬▬▬ ▬▬ ▬ ▬▬▬ ▬▬ ▬▬ ▬▬▬ ▬ ▬▬▬▬ ▬▬ ▬▬▬ ▬▬ ▬ ▬▬▬ ▬▬▬▬ ▬▬ ▬ ▬▬▬ ▬▬ ▬▬ ▬▬▬ ▬ ▬▬▬▬ ▬▬ ▬▬▬ ▬▬ ▬ ▬▬▬ ▬▬▬▬ ▬▬ ▬ ▬▬▬ ▬▬ ▬▬ ▬▬▬ ▬ ▬▬▬▬ ▬▬ ▬▬▬ ▬▬ ▬ ▬▬▬ ▬▬▬▬ ▬▬ ▬ ▬▬▬ ▬▬ ▬▬ ▬▬▬ ▬ ▬▬▬▬ ▬▬ ▬▬▬ ▬▬ ▬ ▬▬▬ ▬▬▬▬ ▬▬ ▬ ▬▬▬ ▬▬ ▬▬ ▬▬▬ ▬ ▬▬▬▬ ▬▬ ▬▬▬ ▬▬ ▬ ▬▬▬ ▬▬▬▬ ▬▬ ▬ ▬▬▬ ▬▬ ▬▬ ▬▬▬ ▬ ▬▬▬▬ ▬▬ ▬▬▬ ▬▬ ▬ ▬▬▬ ▬▬▬▬ ▬▬ ▬ ▬▬▬ ▬▬ ▬▬ ▬▬▬ ▬ ▬▬▬▬ ▬▬ ▬▬▬ ▬▬ ▬ ▬▬▬ ▬▬▬▬ ▬▬ ▬ ▬▬▬ ▬▬ ▬▬ ▬▬▬ ▬ ▬▬▬▬ ▬▬ ▬▬▬ ▬▬ ▬ ▬▬▬ ▬▬▬▬ ▬▬ ▬ ▬▬▬ ▬▬ ▬▬ ▬▬▬ ▬ ▬▬▬▬ ▬▬ ▬▬▬ ▬▬ ▬ ▬▬▬ ▬▬▬▬ ▬▬ ▬ ▬▬▬ ▬▬ ▬▬ ▬▬▬ ▬ ▬▬▬▬ ▬▬ ▬▬▬ ▬▬ ▬ ▬▬▬ ▬▬▬▬ ▬▬ ▬ ▬▬▬ ▬▬ ▬▬ ▬▬▬ ▬ ▬▬▬▬ ▬▬ ▬▬▬ ▬▬ ▬ ▬▬▬ ▬▬▬▬ ▬▬ ▬ ▬▬▬ ▬▬ ▬▬ ▬▬▬ ▬ ▬▬▬▬ ▬▬ ▬▬▬ ▬▬ ▬ ▬▬▬ ▬▬▬▬ ▬▬ ▬ ▬▬▬ ▬▬ ▬▬ ▬▬▬ ▬ ▬▬▬▬ ▬▬ ▬▬▬ ▬▬ ▬ ▬▬▬ ▬▬▬▬ ▬▬ ▬ ▬▬▬ ▬▬ ▬▬ ▬▬▬ ▬ ▬▬▬▬ ▬▬ ▬▬▬ ▬▬ ▬ ▬▬▬ ▬▬▬▬ ▬▬ ▬ ▬▬▬ ▬▬ ▬▬ ▬▬▬ ▬ ▬▬▬▬ ▬▬ ▬▬▬ ▬▬ ▬ ▬▬▬ ▬▬▬▬ ▬▬ ▬ ▬▬▬ ▬▬ ▬▬ ▬▬▬ ▬ ▬▬▬▬ ▬▬ ▬▬▬ ▬▬ ▬ ▬▬▬ ▬▬▬▬ ▬▬ ▬ ▬▬▬ ▬▬ ▬▬ ▬▬▬ ▬ ▬▬▬▬ ▬▬ ▬▬▬ ▬▬ ▬ ▬▬▬ ▬▬▬▬ ▬▬ ▬ ▬▬▬ ▬▬ ▬▬ ▬▬▬ ▬ ▬▬▬▬ ▬▬ ▬▬▬ ▬▬ ▬ ▬▬▬ ▬▬▬▬ ▬▬ ▬ ▬▬▬ ▬▬ ▬▬ ▬▬▬ ▬ ▬▬▬▬ ▬▬ ▬▬▬ ▬▬ ▬ ▬▬▬ ▬▬▬▬ ▬▬ ▬ ▬▬▬ ▬▬ ▬▬ ▬▬▬ ▬ ▬▬▬▬ ▬▬ ▬▬▬ ▬▬ ▬ ▬▬▬ ▬▬▬▬ ▬▬ ▬ ▬▬▬ ▬▬ ▬▬ ▬▬▬ ▬ ▬▬▬▬ ▬▬ ▬▬▬ ▬▬ ▬ ▬▬▬ ▬▬▬▬ ▬▬ ▬ ▬▬▬ ▬▬ ▬▬ ▬▬▬ ▬ ▬▬▬▬ ▬▬ ▬▬▬ ▬▬ ▬ ▬▬▬ ▬▬▬▬ ▬▬ ▬ ▬▬▬ ▬▬ ▬▬ ▬▬▬ ▬ ▬▬▬▬ ▬▬ ▬▬▬ ▬▬ ▬ ▬▬▬ ▬▬▬▬ ▬▬ ▬ ▬▬▬ ▬▬ ▬▬ ▬▬▬ ▬ ▬▬▬▬ ▬▬ ▬▬▬ ▬▬ ▬ ▬▬▬ ▬▬▬▬ ▬▬ ▬ ▬▬▬ ▬▬ ▬▬ ▬▬▬ ▬ ▬▬▬▬ ▬▬ ▬▬▬ ▬▬ ▬ ▬▬▬ ▬▬▬▬ ▬▬ ▬ ▬▬▬ ▬▬ ▬▬ ▬▬▬ ▬ ▬▬▬▬ ▬▬ ▬▬▬ ▬▬ ▬ ▬▬▬ ▬▬▬▬ ▬▬ ▬ ▬▬▬ ▬▬ ▬▬ ▬▬▬ ▬ ▬▬▬▬ ▬▬ ▬▬▬ ▬▬ ▬ ▬▬▬ ▬▬▬▬ ▬▬ ▬ ▬▬▬ ▬▬ ▬▬ ▬▬▬ ▬ ▬▬▬▬ ▬▬ ▬▬▬ ▬▬ ▬ ▬▬▬ ▬▬▬▬ ▬▬ ▬ ▬▬▬ ▬▬ ▬▬ ▬▬▬ ▬ ▬▬▬▬ ▬▬ ▬▬▬ ▬▬ ▬ ▬▬▬ ▬▬▬▬ ▬▬ ▬ ▬▬▬ ▬▬ ▬▬ ▬▬▬ ▬ ▬▬▬▬ ▬▬ ▬▬▬ ▬▬ ▬ ▬▬▬ ▬▬▬▬ ▬▬ ▬ ▬▬▬ ▬▬ ▬▬ ▬▬▬ ▬ ▬▬▬▬ ▬▬ ▬▬▬ ▬▬ ▬ ▬▬▬ ▬▬▬▬ ▬▬ ▬ ▬▬▬ ▬▬ ▬▬ ▬▬▬ ▬ ▬▬▬▬ ▬▬ ▬▬▬ ▬▬ ▬ ▬▬▬ ▬▬▬▬ ▬▬ ▬ ▬▬▬ ▬▬ ▬▬ ▬▬▬ ▬ ▬▬▬▬ ▬▬ ▬▬▬ ▬▬ ▬ ▬▬▬ ▬▬▬▬ ▬▬ ▬ ▬▬▬ ▬▬ ▬▬ ▬▬▬ ▬ ▬▬▬▬ ▬▬ ▬▬▬ ▬▬ ▬ ▬▬▬ ▬▬▬▬ ▬▬ ▬ ▬▬▬ ▬▬ ▬▬ ▬▬▬ ▬ ▬▬▬▬ ▬▬ ▬▬▬ ▬▬ ▬ ▬▬▬ ▬▬▬▬ ▬▬ ▬ ▬▬▬ ▬▬ ▬▬ ▬▬▬ ▬ ▬▬▬▬ ▬▬ ▬▬▬ ▬▬ ▬ ▬▬▬ ▬▬▬▬ ▬▬ ▬ ▬▬▬ ▬▬ ▬▬ ▬▬▬ ▬ ▬▬▬▬ ▬▬ ▬▬▬ ▬▬ ▬ ▬▬▬ ▬▬▬▬ ▬▬ ▬ ▬▬▬ ▬▬ ▬▬ ▬▬▬ ▬ ▬▬▬▬ ▬▬ ▬▬▬ ▬▬ ▬ ▬▬▬ ▬▬▬▬ ▬▬ ▬ ▬▬▬ ▬▬ ▬▬ ▬▬▬ ▬ ▬▬▬▬ ▬▬ ▬▬▬ ▬▬ ▬ ▬▬▬ ▬▬▬▬ ▬▬ ▬ ▬▬▬ ▬▬ ▬▬ ▬▬▬ ▬ ▬▬▬▬ ▬▬ ▬▬▬ ▬▬ ▬ ▬▬▬ ▬▬▬▬ ▬▬ ▬ ▬▬▬ ▬▬ ▬▬ ▬▬▬ ▬ ▬▬▬▬ ▬▬ ▬▬▬ ▬▬ ▬ ▬▬▬ ▬▬▬▬ ▬▬ ▬ ▬▬▬ ▬▬ ▬▬ ▬▬▬ ▬ ▬▬▬▬ ▬▬ ▬▬▬ ▬▬ ▬ ▬▬▬ ▬▬▬▬ ▬▬ ▬ ▬▬▬ ▬▬ ▬▬ ▬▬▬ ▬ ▬▬▬▬ ▬▬ ▬▬▬ ▬▬ ▬ ▬▬▬ ▬▬▬▬ ▬▬ ▬ ▬▬▬ ▬▬ ▬▬ ▬▬▬ ▬ ▬▬▬▬ ▬▬ ▬▬▬ ▬▬ ▬ ▬▬▬ ▬▬▬▬ ▬▬ ▬ ▬▬▬ ▬▬
स्वच्छता पर चित्रकला व सामान्य ज्ञान प्रतियोगिता
▬▬ ▬▬▬ ▬ ▬▬▬▬ ▬▬ ▬▬▬ ▬▬ ▬ ▬▬▬ ▬▬▬▬ ▬▬ ▬ ▬▬▬ ▬▬ ▬▬ ▬▬▬ ▬ ▬▬▬▬ ▬▬ ▬▬▬ ▬▬ ▬ ▬▬▬ ▬▬▬▬ ▬▬ ▬ ▬▬▬ ▬▬ ▬▬ ▬▬▬ ▬ ▬▬▬▬ ▬▬ ▬▬▬ ▬▬ ▬ ▬▬▬ ▬▬▬▬ ▬▬ ▬ ▬▬▬ ▬▬ ▬▬ ▬▬▬ ▬ ▬▬▬▬ ▬▬ ▬▬▬ ▬▬ ▬ ▬▬▬ ▬▬▬▬ ▬▬ ▬ ▬▬▬ ▬▬ ▬▬ ▬▬▬ ▬ ▬▬▬▬ ▬▬ ▬▬▬ ▬▬ ▬ ▬▬▬ ▬▬▬▬ ▬▬ ▬ ▬▬▬ ▬▬ ▬▬ ▬▬▬ ▬ ▬▬▬▬ ▬▬ ▬▬▬ ▬▬ ▬ ▬▬▬ ▬▬▬▬ ▬▬ ▬ ▬▬▬ ▬▬ ▬▬ ▬▬▬ ▬ ▬▬▬▬ ▬▬ ▬▬▬ ▬▬ ▬ ▬▬▬ ▬▬▬▬ ▬▬ ▬ ▬▬▬ ▬▬ ▬▬ ▬▬▬ ▬ ▬▬▬▬ ▬▬ ▬▬▬ ▬▬ ▬ ▬▬▬ ▬▬▬▬ ▬▬ ▬ ▬▬▬ ▬▬ ▬▬ ▬▬▬ ▬ ▬▬▬▬ ▬▬ ▬▬▬ ▬▬ ▬ ▬▬▬ ▬▬▬▬ ▬▬ ▬ ▬▬▬ ▬▬ ▬▬ ▬▬▬ ▬ ▬▬▬▬ ▬▬ ▬▬▬ ▬▬ ▬ ▬▬▬ ▬▬▬▬ ▬▬ ▬ ▬▬▬ ▬▬ ▬▬ ▬▬▬ ▬ ▬▬▬▬ ▬▬ ▬▬▬ ▬▬ ▬ ▬▬▬ ▬▬▬▬ ▬▬ ▬ ▬▬▬ ▬▬ ▬▬ ▬▬▬ ▬ ▬▬▬▬ ▬▬ ▬▬▬ ▬▬ ▬ ▬▬▬ ▬▬▬▬ ▬▬ ▬ ▬▬▬ ▬▬ ▬▬ ▬▬▬ ▬ ▬▬▬▬ ▬▬ ▬▬▬ ▬▬ ▬ ▬▬▬ ▬▬▬▬ ▬▬ ▬ ▬▬▬ ▬▬ ▬▬ ▬▬▬ ▬ ▬▬▬▬ ▬▬ ▬▬▬ ▬▬ ▬ ▬▬▬ ▬▬▬▬ ▬▬ ▬ ▬▬▬ ▬▬ ▬▬ ▬▬▬ ▬ ▬▬▬▬ ▬▬ ▬▬▬ ▬▬ ▬ ▬▬▬ ▬▬▬▬ ▬▬ ▬ ▬▬▬ ▬▬ ▬▬ ▬▬▬ ▬ ▬▬▬▬ ▬▬ ▬▬▬ ▬▬ ▬ ▬▬▬ ▬▬▬▬ ▬▬ ▬ ▬▬▬ ▬▬ ▬▬ ▬▬▬ ▬ ▬▬▬▬ ▬▬ ▬▬▬ ▬▬ ▬ ▬▬▬ ▬▬▬▬ ▬▬ ▬ ▬▬▬ ▬▬ ▬▬ ▬▬▬ ▬ ▬▬▬▬ ▬▬ ▬▬▬ ▬▬ ▬ ▬▬▬ ▬▬▬▬ ▬▬ ▬ ▬▬▬ ▬▬ ▬▬ ▬▬▬ ▬ ▬▬▬▬ ▬▬ ▬▬▬ ▬▬ ▬ ▬▬▬ ▬▬▬▬ ▬▬ ▬ ▬▬▬ ▬▬ ▬▬ ▬▬▬ ▬ ▬▬▬▬ ▬▬ ▬▬▬ ▬▬ ▬ ▬▬▬ ▬▬▬▬ ▬▬ ▬ ▬▬▬ ▬▬ ▬▬ ▬▬▬ ▬ ▬▬▬▬ ▬▬ ▬▬▬ ▬▬ ▬ ▬▬▬ ▬▬▬▬ ▬▬ ▬ ▬▬▬ ▬▬ ▬▬ ▬▬▬ ▬ ▬▬▬▬ ▬▬ ▬▬▬ ▬▬ ▬ ▬▬▬ ▬▬▬▬ ▬▬ ▬ ▬▬▬ ▬▬ ▬▬ ▬▬▬ ▬ ▬▬▬▬ ▬▬ ▬▬▬ ▬▬ ▬ ▬▬▬ ▬▬▬▬ ▬▬ ▬ ▬▬▬ ▬▬ ▬▬ ▬▬▬ ▬ ▬▬▬▬ ▬▬ ▬▬▬ ▬▬ ▬ ▬▬▬ ▬▬▬▬ ▬▬ ▬ ▬▬▬ ▬▬ ▬▬ ▬▬▬ ▬ ▬▬▬▬ ▬▬ ▬▬▬ ▬▬ ▬ ▬▬▬ ▬▬▬▬ ▬▬ ▬ ▬▬▬ ▬▬ ▬▬ ▬▬▬ ▬ ▬▬▬▬ ▬▬ ▬▬▬ ▬▬ ▬ ▬▬▬ ▬▬▬▬ ▬▬ ▬ ▬▬▬ ▬▬ ▬▬ ▬▬▬ ▬ ▬▬▬▬ ▬▬ ▬▬▬ ▬▬ ▬ ▬▬▬ ▬▬▬▬ ▬▬ ▬ ▬▬▬ ▬▬ ▬▬ ▬▬▬ ▬ ▬▬▬▬ ▬▬ ▬▬▬ ▬▬ ▬ ▬▬▬ ▬▬▬▬ ▬▬ ▬ ▬▬▬ ▬▬ ▬▬ ▬▬▬ ▬ ▬▬▬▬ ▬▬ ▬▬▬ ▬▬ ▬ ▬▬▬ ▬▬▬▬ ▬▬ ▬ ▬▬▬ ▬▬ ▬▬ ▬▬▬ ▬ ▬▬▬▬ ▬▬ ▬▬▬ ▬▬ ▬ ▬▬▬ ▬▬▬▬ ▬▬ ▬ ▬▬▬ ▬▬ ▬▬ ▬▬▬ ▬ ▬▬▬▬ ▬▬ ▬▬▬ ▬▬ ▬ ▬▬▬ ▬▬▬▬ ▬▬ ▬ ▬▬▬ ▬▬ ▬▬ ▬▬▬ ▬ ▬▬▬▬ ▬▬ ▬▬▬ ▬▬ ▬ ▬▬▬ ▬▬▬▬ ▬▬ ▬ ▬▬▬ ▬▬ ▬▬ ▬▬▬ ▬ ▬▬▬▬ ▬▬ ▬▬▬ ▬▬ ▬ ▬▬▬ ▬▬▬▬ ▬▬ ▬ ▬▬▬ ▬▬ ▬▬ ▬▬▬ ▬ ▬▬▬▬ ▬▬ ▬▬▬ ▬▬ ▬ ▬▬▬ ▬▬▬▬ ▬▬ ▬ ▬▬▬ ▬▬ ▬▬ ▬▬▬ ▬ ▬▬▬▬ ▬▬ ▬▬▬ ▬▬ ▬ ▬▬▬ ▬▬▬▬ ▬▬ ▬ ▬▬▬ ▬▬ ▬▬ ▬▬▬ ▬ ▬▬▬▬ ▬▬ ▬▬▬ ▬▬ ▬ ▬▬▬ ▬▬▬▬ ▬▬ ▬ ▬▬▬ ▬▬ ▬▬ ▬▬▬ ▬ ▬▬▬▬ ▬▬ ▬▬▬ ▬▬ ▬ ▬▬▬ ▬▬▬▬ ▬▬ ▬ ▬▬▬ ▬▬ ▬▬ ▬▬▬ ▬ ▬▬▬▬ ▬▬ ▬▬▬ ▬▬ ▬ ▬▬▬ ▬▬▬▬ ▬▬ ▬ ▬▬▬ ▬▬ ▬▬ ▬▬▬ ▬ ▬▬▬▬ ▬▬ ▬▬▬ ▬▬ ▬ ▬▬▬ ▬▬▬▬ ▬▬ ▬ ▬▬▬ ▬▬ ▬▬ ▬▬▬ ▬ ▬▬▬▬ ▬▬ ▬▬▬ ▬▬ ▬ ▬▬▬ ▬▬▬▬ ▬▬ ▬ ▬▬▬ ▬▬ ▬▬ ▬▬▬ ▬ ▬▬▬▬ ▬▬ ▬▬▬ ▬▬ ▬ ▬▬▬ ▬▬▬▬ ▬▬ ▬ ▬▬▬ ▬▬ ▬▬ ▬▬▬ ▬ ▬▬▬▬ ▬▬ ▬▬▬ ▬▬ ▬ ▬▬▬ ▬▬▬▬ ▬▬ ▬ ▬▬▬ ▬▬ ▬▬ ▬▬▬ ▬ ▬▬▬▬ ▬▬ ▬▬▬ ▬▬ ▬ ▬▬▬ ▬▬▬▬ ▬▬ ▬ ▬▬▬ ▬▬ ▬▬ ▬▬▬ ▬ ▬▬▬▬ ▬▬ ▬▬▬ ▬▬ ▬ ▬▬▬ ▬▬▬▬ ▬▬ ▬ ▬▬▬ ▬▬ ▬▬ ▬▬▬ ▬ ▬▬▬▬ ▬▬ ▬▬▬ ▬▬ ▬ ▬▬▬ ▬▬▬▬ ▬▬ ▬ ▬▬▬ ▬▬ ▬▬ ▬▬▬ ▬ ▬▬▬▬ ▬▬ ▬▬▬ ▬▬ ▬ ▬▬▬ ▬▬▬▬ ▬▬ ▬ ▬▬▬ ▬▬ ▬▬ ▬▬▬ ▬ ▬▬▬▬ ▬▬ ▬▬▬ ▬▬ ▬ ▬▬▬ ▬▬▬▬ ▬▬ ▬ ▬▬▬ ▬▬ ▬▬ ▬▬▬ ▬ ▬▬▬▬ ▬▬ ▬▬▬ ▬▬ ▬ ▬▬▬ ▬▬▬▬ ▬▬ ▬ ▬▬▬ ▬▬ ▬▬ ▬▬▬ ▬ ▬▬▬▬ ▬▬ ▬▬▬ ▬▬ ▬ ▬▬▬ ▬▬▬▬ ▬▬ ▬ ▬▬▬ ▬▬ ▬▬ ▬▬▬ ▬ ▬▬▬▬ ▬▬ ▬▬▬ ▬▬ ▬ ▬▬▬ ▬▬▬▬ ▬▬ ▬ ▬▬▬ ▬▬ ▬▬ ▬▬▬ ▬ ▬▬▬▬ ▬▬ ▬▬▬ ▬▬ ▬ ▬▬▬ ▬▬▬▬ ▬▬ ▬ ▬▬▬ ▬▬ ▬▬ ▬▬▬ ▬ ▬▬▬▬ ▬▬ ▬▬▬ ▬▬ ▬ ▬▬▬ ▬▬▬▬ ▬▬ ▬ ▬▬▬ ▬▬ ▬▬ ▬▬▬ ▬ ▬▬▬▬ ▬▬ ▬▬▬ ▬▬ ▬ ▬▬▬ ▬▬▬▬ ▬▬ ▬ ▬▬▬ ▬▬ ▬▬ ▬▬▬ ▬ ▬▬▬▬ ▬▬ ▬▬▬ ▬▬ ▬ ▬▬▬ ▬▬▬▬ ▬▬ ▬ ▬▬▬ ▬▬ ▬▬ ▬▬▬ ▬ ▬▬▬▬ ▬▬ ▬▬▬ ▬▬ ▬ ▬▬▬ ▬▬▬▬ ▬▬ ▬ ▬▬▬ ▬▬ ▬▬ ▬▬▬ ▬ ▬▬▬▬ ▬▬ ▬▬▬ ▬▬ ▬ ▬▬▬ ▬▬▬▬ ▬▬ ▬ ▬▬▬ ▬▬ ▬▬ ▬▬▬ ▬ ▬▬▬▬ ▬▬ ▬▬▬ ▬▬ ▬ ▬▬▬ ▬▬▬▬ ▬▬ ▬ ▬▬▬ ▬▬ ▬▬ ▬▬▬ ▬ ▬▬▬▬ ▬▬ ▬▬▬ ▬▬ ▬ ▬▬▬ ▬▬▬▬ ▬▬ ▬ ▬▬▬ ▬▬ ▬▬ ▬▬▬ ▬ ▬▬▬▬ ▬▬ ▬▬▬ ▬▬ ▬ ▬▬▬ ▬▬▬▬ ▬▬ ▬ ▬▬▬ ▬▬ ▬▬ ▬▬▬ ▬ ▬▬▬▬ ▬▬ ▬▬▬ ▬▬ ▬ ▬▬▬ ▬▬▬▬ ▬▬ ▬ ▬▬▬ ▬▬
▬▬ ▬▬▬ ▬ ▬▬▬▬ ▬▬ ▬▬▬ ▬▬ ▬ ▬▬▬ ▬▬▬▬ ▬▬ ▬ ▬▬▬ ▬▬ ▬▬ ▬▬▬ ▬ ▬▬▬▬ ▬▬ ▬▬▬ ▬▬ ▬ ▬▬▬ ▬▬▬▬ ▬▬ ▬ ▬▬▬ ▬▬ ▬▬ ▬▬▬ ▬ ▬▬▬▬ ▬▬ ▬▬▬ ▬▬ ▬ ▬▬▬ ▬▬▬▬ ▬▬ ▬ ▬▬▬ ▬▬ ▬▬ ▬▬▬ ▬ ▬▬▬▬ ▬▬ ▬▬▬ ▬▬ ▬ ▬▬▬ ▬▬▬▬ ▬▬ ▬ ▬▬▬ ▬▬ ▬▬ ▬▬▬ ▬ ▬▬▬▬ ▬▬ ▬▬▬ ▬▬ ▬ ▬▬▬ ▬▬▬▬ ▬▬ ▬ ▬▬▬ ▬▬ ▬▬ ▬▬▬ ▬ ▬▬▬▬ ▬▬ ▬▬▬ ▬▬ ▬ ▬▬▬ ▬▬▬▬ ▬▬ ▬ ▬▬▬ ▬▬ ▬▬ ▬▬▬ ▬ ▬▬▬▬ ▬▬ ▬▬▬ ▬▬ ▬ ▬▬▬ ▬▬▬▬ ▬▬ ▬ ▬▬▬ ▬▬ ▬▬ ▬▬▬ ▬ ▬▬▬▬ ▬▬ ▬▬▬ ▬▬ ▬ ▬▬▬ ▬▬▬▬ ▬▬ ▬ ▬▬▬ ▬▬ ▬▬ ▬▬▬ ▬ ▬▬▬▬ ▬▬ ▬▬▬ ▬▬ ▬ ▬▬▬ ▬▬▬▬ ▬▬ ▬ ▬▬▬ ▬▬ ▬▬ ▬▬▬ ▬ ▬▬▬▬ ▬▬ ▬▬▬ ▬▬ ▬ ▬▬▬ ▬▬▬▬ ▬▬ ▬ ▬▬▬ ▬▬ ▬▬ ▬▬▬ ▬ ▬▬▬▬ ▬▬ ▬▬▬ ▬▬ ▬ ▬▬▬ ▬▬▬▬ ▬▬ ▬ ▬▬▬ ▬▬ ▬▬ ▬▬▬ ▬ ▬▬▬▬ ▬▬ ▬▬▬ ▬▬ ▬ ▬▬▬ ▬▬▬▬ ▬▬ ▬ ▬▬▬ ▬▬ ▬▬ ▬▬▬ ▬ ▬▬▬▬ ▬▬ ▬▬▬ ▬▬ ▬ ▬▬▬ ▬▬▬▬ ▬▬ ▬ ▬▬▬ ▬▬ ▬▬ ▬▬▬ ▬ ▬▬▬▬ ▬▬ ▬▬▬ ▬▬ ▬ ▬▬▬ ▬▬▬▬ ▬▬ ▬ ▬▬▬ ▬▬ ▬▬ ▬▬▬ ▬ ▬▬▬▬ ▬▬ ▬▬▬ ▬▬ ▬ ▬▬▬ ▬▬▬▬ ▬▬ ▬ ▬▬▬ ▬▬ ▬▬ ▬▬▬ ▬ ▬▬▬▬ ▬▬ ▬▬▬ ▬▬ ▬ ▬▬▬ ▬▬▬▬ ▬▬ ▬ ▬▬▬ ▬▬ ▬▬ ▬▬▬ ▬ ▬▬▬▬ ▬▬ ▬▬▬ ▬▬ ▬ ▬▬▬ ▬▬▬▬ ▬▬ ▬ ▬▬▬ ▬▬ ▬▬ ▬▬▬ ▬ ▬▬▬▬ ▬▬ ▬▬▬ ▬▬ ▬ ▬▬▬ ▬▬▬▬ ▬▬ ▬ ▬▬▬ ▬▬ ▬▬ ▬▬▬ ▬ ▬▬▬▬ ▬▬ ▬▬▬ ▬▬ ▬ ▬▬▬ ▬▬▬▬ ▬▬ ▬ ▬▬▬ ▬▬ ▬▬ ▬▬▬ ▬ ▬▬▬▬ ▬▬ ▬▬▬ ▬▬ ▬ ▬▬▬ ▬▬▬▬ ▬▬ ▬ ▬▬▬ ▬▬ ▬▬ ▬▬▬ ▬ ▬▬▬▬ ▬▬ ▬▬▬ ▬▬ ▬ ▬▬▬ ▬▬▬▬ ▬▬ ▬ ▬▬▬ ▬▬ ▬▬ ▬▬▬ ▬ ▬▬▬▬ ▬▬ ▬▬▬ ▬▬ ▬ ▬▬▬ ▬▬▬▬ ▬▬ ▬ ▬▬▬ ▬▬ ▬▬ ▬▬▬ ▬ ▬▬▬▬ ▬▬ ▬▬▬ ▬▬ ▬ ▬▬▬ ▬▬▬▬ ▬▬ ▬ ▬▬▬ ▬▬ ▬▬ ▬▬▬ ▬ ▬▬▬▬ ▬▬ ▬▬▬ ▬▬ ▬ ▬▬▬ ▬▬▬▬ ▬▬ ▬ ▬▬▬ ▬▬ ▬▬ ▬▬▬ ▬ ▬▬▬▬ ▬▬ ▬▬▬ ▬▬ ▬ ▬▬▬ ▬▬▬▬ ▬▬ ▬ ▬▬▬ ▬▬ ▬▬ ▬▬▬ ▬ ▬▬▬▬ ▬▬ ▬▬▬ ▬▬ ▬ ▬▬▬ ▬▬▬▬ ▬▬ ▬ ▬▬▬ ▬▬ ▬▬ ▬▬▬ ▬ ▬▬▬▬ ▬▬ ▬▬▬ ▬▬ ▬ ▬▬▬ ▬▬▬▬ ▬▬ ▬ ▬▬▬ ▬▬ ▬▬ ▬▬▬ ▬ ▬▬▬▬ ▬▬ ▬▬▬ ▬▬ ▬ ▬▬▬ ▬▬▬▬ ▬▬ ▬ ▬▬▬ ▬▬ ▬▬ ▬▬▬ ▬ ▬▬▬▬ ▬▬ ▬▬▬ ▬▬ ▬ ▬▬▬ ▬▬▬▬ ▬▬ ▬ ▬▬▬ ▬▬ ▬▬ ▬▬▬ ▬ ▬▬▬▬ ▬▬ ▬▬▬ ▬▬ ▬ ▬▬▬ ▬▬▬▬ ▬▬ ▬ ▬▬▬ ▬▬ ▬▬ ▬▬▬ ▬ ▬▬▬▬ ▬▬ ▬▬▬ ▬▬ ▬ ▬▬▬ ▬▬▬▬ ▬▬ ▬ ▬▬▬ ▬▬ ▬▬ ▬▬▬ ▬ ▬▬▬▬ ▬▬ ▬▬▬ ▬▬ ▬ ▬▬▬ ▬▬▬▬ ▬▬ ▬ ▬▬▬ ▬▬ ▬▬ ▬▬▬ ▬ ▬▬▬▬ ▬▬ ▬▬▬ ▬▬ ▬ ▬▬▬ ▬▬▬▬ ▬▬ ▬ ▬▬▬ ▬▬ ▬▬ ▬▬▬ ▬ ▬▬▬▬ ▬▬ ▬▬▬ ▬▬ ▬ ▬▬▬ ▬▬▬▬ ▬▬ ▬ ▬▬▬ ▬▬ ▬▬ ▬▬▬ ▬ ▬▬▬▬ ▬▬ ▬▬▬ ▬▬ ▬ ▬▬▬ ▬▬▬▬ ▬▬ ▬ ▬▬▬ ▬▬ ▬▬ ▬▬▬ ▬ ▬▬▬▬ ▬▬ ▬▬▬ ▬▬ ▬ ▬▬▬ ▬▬▬▬ ▬▬ ▬ ▬▬▬ ▬▬ ▬▬ ▬▬▬ ▬ ▬▬▬▬ ▬▬ ▬▬▬ ▬▬ ▬ ▬▬▬ ▬▬▬▬ ▬▬ ▬ ▬▬▬ ▬▬ ▬▬ ▬▬▬ ▬ ▬▬▬▬ ▬▬ ▬▬▬ ▬▬ ▬ ▬▬▬ ▬▬▬▬ ▬▬ ▬ ▬▬▬ ▬▬ ▬▬ ▬▬▬ ▬ ▬▬▬▬ ▬▬ ▬▬▬ ▬▬ ▬ ▬▬▬ ▬▬▬▬ ▬▬ ▬ ▬▬▬ ▬▬ ▬▬ ▬▬▬ ▬ ▬▬▬▬ ▬▬ ▬▬▬ ▬▬ ▬ ▬▬▬ ▬▬▬▬ ▬▬ ▬ ▬▬▬ ▬▬ ▬▬ ▬▬▬ ▬ ▬▬▬▬ ▬▬ ▬▬▬ ▬▬ ▬ ▬▬▬ ▬▬▬▬ ▬▬ ▬ ▬▬▬ ▬▬ ▬▬ ▬▬▬ ▬ ▬▬▬▬ ▬▬ ▬▬▬ ▬▬ ▬ ▬▬▬ ▬▬▬▬ ▬▬ ▬ ▬▬▬ ▬▬ ▬▬ ▬▬▬ ▬ ▬▬▬▬ ▬▬ ▬▬▬ ▬▬ ▬ ▬▬▬ ▬▬▬▬ ▬▬ ▬ ▬▬▬ ▬▬ ▬▬ ▬▬▬ ▬ ▬▬▬▬ ▬▬ ▬▬▬ ▬▬ ▬ ▬▬▬ ▬▬▬▬ ▬▬ ▬ ▬▬▬ ▬▬ ▬▬ ▬▬▬ ▬ ▬▬▬▬ ▬▬ ▬▬▬ ▬▬ ▬ ▬▬▬ ▬▬▬▬ ▬▬ ▬ ▬▬▬ ▬▬ ▬▬ ▬▬▬ ▬ ▬▬▬▬ ▬▬ ▬▬▬ ▬▬ ▬ ▬▬▬ ▬▬▬▬ ▬▬ ▬ ▬▬▬ ▬▬ ▬▬ ▬▬▬ ▬ ▬▬▬▬ ▬▬ ▬▬▬ ▬▬ ▬ ▬▬▬ ▬▬▬▬ ▬▬ ▬ ▬▬▬ ▬▬ ▬▬ ▬▬▬ ▬ ▬▬▬▬ ▬▬ ▬▬▬ ▬▬ ▬ ▬▬▬ ▬▬▬▬ ▬▬ ▬ ▬▬▬ ▬▬ ▬▬ ▬▬▬ ▬ ▬▬▬▬ ▬▬ ▬▬▬ ▬▬ ▬ ▬▬▬ ▬▬▬▬ ▬▬ ▬ ▬▬▬ ▬▬ ▬▬ ▬▬▬ ▬ ▬▬▬▬ ▬▬ ▬▬▬ ▬▬ ▬ ▬▬▬ ▬▬▬▬ ▬▬ ▬ ▬▬▬ ▬▬ ▬▬ ▬▬▬ ▬ ▬▬▬▬ ▬▬ ▬▬▬ ▬▬ ▬ ▬▬▬ ▬▬▬▬ ▬▬ ▬ ▬▬▬ ▬▬ ▬▬ ▬▬▬ ▬ ▬▬▬▬ ▬▬ ▬▬▬ ▬▬ ▬ ▬▬▬ ▬▬▬▬ ▬▬ ▬ ▬▬▬ ▬▬ ▬▬ ▬▬▬ ▬ ▬▬▬▬ ▬▬ ▬▬▬ ▬▬ ▬ ▬▬▬ ▬▬▬▬ ▬▬ ▬ ▬▬▬ ▬▬ ▬▬ ▬▬▬ ▬ ▬▬▬▬ ▬▬ ▬▬▬ ▬▬ ▬ ▬▬▬ ▬▬▬▬ ▬▬ ▬ ▬▬▬ ▬▬ ▬▬ ▬▬▬ ▬ ▬▬▬▬ ▬▬ ▬▬▬ ▬▬ ▬ ▬▬▬ ▬▬▬▬ ▬▬ ▬ ▬▬▬ ▬▬ ▬▬ ▬▬▬ ▬ ▬▬▬▬ ▬▬ ▬▬▬ ▬▬ ▬ ▬▬▬ ▬▬▬▬ ▬▬ ▬ ▬▬▬ ▬▬ ▬▬ ▬▬▬ ▬ ▬▬▬▬ ▬▬ ▬▬▬ ▬▬ ▬ ▬▬▬ ▬▬▬▬ ▬▬ ▬ ▬▬▬ ▬▬ ▬▬ ▬▬▬ ▬ ▬▬▬▬ ▬▬ ▬▬▬ ▬▬ ▬ ▬▬▬ ▬▬▬▬ ▬▬ ▬ ▬▬▬ ▬▬ ▬▬ ▬▬▬ ▬ ▬▬▬▬ ▬▬ ▬▬▬ ▬▬ ▬ ▬▬▬ ▬▬▬▬ ▬▬ ▬ ▬▬▬ ▬▬ ▬▬ ▬▬▬ ▬ ▬▬▬▬ ▬▬ ▬▬▬ ▬▬ ▬ ▬▬▬ ▬▬▬▬ ▬▬ ▬ ▬▬▬ ▬▬
▬▬ ▬▬▬ ▬ ▬▬▬▬ ▬▬ ▬▬▬ ▬▬ ▬ ▬▬▬ ▬▬▬▬ ▬▬ ▬ ▬▬▬ ▬▬ ▬▬ ▬▬▬ ▬ ▬▬▬▬ ▬▬ ▬▬▬ ▬▬ ▬ ▬▬▬ ▬▬▬▬ ▬▬ ▬ ▬▬▬ ▬▬ ▬▬ ▬▬▬ ▬ ▬▬▬▬ ▬▬ ▬▬▬ ▬▬ ▬ ▬▬▬ ▬▬▬▬ ▬▬ ▬ ▬▬▬ ▬▬ ▬▬ ▬▬▬ ▬ ▬▬▬▬ ▬▬ ▬▬▬ ▬▬ ▬ ▬▬▬ ▬▬▬▬ ▬▬ ▬ ▬▬▬ ▬▬ ▬▬ ▬▬▬ ▬ ▬▬▬▬ ▬▬ ▬▬▬ ▬▬ ▬ ▬▬▬ ▬▬▬▬ ▬▬ ▬ ▬▬▬ ▬▬ ▬▬ ▬▬▬ ▬ ▬▬▬▬ ▬▬ ▬▬▬ ▬▬ ▬ ▬▬▬ ▬▬▬▬ ▬▬ ▬ ▬▬▬ ▬▬ ▬▬ ▬▬▬ ▬ ▬▬▬▬ ▬▬ ▬▬▬ ▬▬ ▬ ▬▬▬ ▬▬▬▬ ▬▬ ▬ ▬▬▬ ▬▬ ▬▬ ▬▬▬ ▬ ▬▬▬▬ ▬▬ ▬▬▬ ▬▬ ▬ ▬▬▬ ▬▬▬▬ ▬▬ ▬ ▬▬▬ ▬▬ ▬▬ ▬▬▬ ▬ ▬▬▬▬ ▬▬ ▬▬▬ ▬▬ ▬ ▬▬▬ ▬▬▬▬ ▬▬ ▬ ▬▬▬ ▬▬ ▬▬ ▬▬▬ ▬ ▬▬▬▬ ▬▬ ▬▬▬ ▬▬ ▬ ▬▬▬ ▬▬▬▬ ▬▬ ▬ ▬▬▬ ▬▬ ▬▬ ▬▬▬ ▬ ▬▬▬▬ ▬▬ ▬▬▬ ▬▬ ▬ ▬▬▬ ▬▬▬▬ ▬▬ ▬ ▬▬▬ ▬▬ ▬▬ ▬▬▬ ▬ ▬▬▬▬ ▬▬ ▬▬▬ ▬▬ ▬ ▬▬▬ ▬▬▬▬ ▬▬ ▬ ▬▬▬ ▬▬ ▬▬ ▬▬▬ ▬ ▬▬▬▬ ▬▬ ▬▬▬ ▬▬ ▬ ▬▬▬ ▬▬▬▬ ▬▬ ▬ ▬▬▬ ▬▬ ▬▬ ▬▬▬ ▬ ▬▬▬▬ ▬▬ ▬▬▬ ▬▬ ▬ ▬▬▬ ▬▬▬▬ ▬▬ ▬ ▬▬▬ ▬▬ ▬▬ ▬▬▬ ▬ ▬▬▬▬ ▬▬ ▬▬▬ ▬▬ ▬ ▬▬▬ ▬▬▬▬ ▬▬ ▬ ▬▬▬ ▬▬ ▬▬ ▬▬▬ ▬ ▬▬▬▬ ▬▬ ▬▬▬ ▬▬ ▬ ▬▬▬ ▬▬▬▬ ▬▬ ▬ ▬▬▬ ▬▬ ▬▬ ▬▬▬ ▬ ▬▬▬▬ ▬▬ ▬▬▬ ▬▬ ▬ ▬▬▬ ▬▬▬▬ ▬▬ ▬ ▬▬▬ ▬▬ ▬▬ ▬▬▬ ▬ ▬▬▬▬ ▬▬ ▬▬▬ ▬▬ ▬ ▬▬▬ ▬▬▬▬ ▬▬ ▬ ▬▬▬ ▬▬ ▬▬ ▬▬▬ ▬ ▬▬▬▬ ▬▬ ▬▬▬ ▬▬ ▬ ▬▬▬ ▬▬▬▬ ▬▬ ▬ ▬▬▬ ▬▬ ▬▬ ▬▬▬ ▬ ▬▬▬▬ ▬▬ ▬▬▬ ▬▬ ▬ ▬▬▬ ▬▬▬▬ ▬▬ ▬ ▬▬▬ ▬▬ ▬▬ ▬▬▬ ▬ ▬▬▬▬ ▬▬ ▬▬▬ ▬▬ ▬ ▬▬▬ ▬▬▬▬ ▬▬ ▬ ▬▬▬ ▬▬ ▬▬ ▬▬▬ ▬ ▬▬▬▬ ▬▬ ▬▬▬ ▬▬ ▬ ▬▬▬ ▬▬▬▬ ▬▬ ▬ ▬▬▬ ▬▬ ▬▬ ▬▬▬ ▬ ▬▬▬▬ ▬▬ ▬▬▬ ▬▬ ▬ ▬▬▬ ▬▬▬▬ ▬▬ ▬ ▬▬▬ ▬▬ ▬▬ ▬▬▬ ▬ ▬▬▬▬ ▬▬ ▬▬▬ ▬▬ ▬ ▬▬▬ ▬▬▬▬ ▬▬ ▬ ▬▬▬ ▬▬ ▬▬ ▬▬▬ ▬ ▬▬▬▬ ▬▬ ▬▬▬ ▬▬ ▬ ▬▬▬ ▬▬▬▬ ▬▬ ▬ ▬▬▬ ▬▬ ▬▬ ▬▬▬ ▬ ▬▬▬▬ ▬▬ ▬▬▬ ▬▬ ▬ ▬▬▬ ▬▬▬▬ ▬▬ ▬ ▬▬▬ ▬▬ ▬▬ ▬▬▬ ▬ ▬▬▬▬ ▬▬ ▬▬▬ ▬▬ ▬ ▬▬▬ ▬▬▬▬ ▬▬ ▬ ▬▬▬ ▬▬ ▬▬ ▬▬▬ ▬ ▬▬▬▬ ▬▬ ▬▬▬ ▬▬ ▬ ▬▬▬ ▬▬▬▬ ▬▬ ▬ ▬▬▬ ▬▬ ▬▬ ▬▬▬ ▬ ▬▬▬▬ ▬▬ ▬▬▬ ▬▬ ▬ ▬▬▬ ▬▬▬▬ ▬▬ ▬ ▬▬▬ ▬▬ ▬▬ ▬▬▬ ▬ ▬▬▬▬ ▬▬ ▬▬▬ ▬▬ ▬ ▬▬▬ ▬▬▬▬ ▬▬ ▬ ▬▬▬ ▬▬ ▬▬ ▬▬▬ ▬ ▬▬▬▬ ▬▬ ▬▬▬ ▬▬ ▬ ▬▬▬ ▬▬▬▬ ▬▬ ▬ ▬▬▬ ▬▬ ▬▬ ▬▬▬ ▬ ▬▬▬▬ ▬▬ ▬▬▬ ▬▬ ▬ ▬▬▬ ▬▬▬▬ ▬▬ ▬ ▬▬▬ ▬▬ ▬▬ ▬▬▬ ▬ ▬▬▬▬ ▬▬ ▬▬▬ ▬▬ ▬ ▬▬▬ ▬▬▬▬ ▬▬ ▬ ▬▬▬ ▬▬ ▬▬ ▬▬▬ ▬ ▬▬▬▬ ▬▬ ▬▬▬ ▬▬ ▬ ▬▬▬ ▬▬▬▬ ▬▬ ▬ ▬▬▬ ▬▬ ▬▬ ▬▬▬ ▬ ▬▬▬▬ ▬▬ ▬▬▬ ▬▬ ▬ ▬▬▬ ▬▬▬▬ ▬▬ ▬ ▬▬▬ ▬▬ ▬▬ ▬▬▬ ▬ ▬▬▬▬ ▬▬ ▬▬▬ ▬▬ ▬ ▬▬▬ ▬▬▬▬ ▬▬ ▬ ▬▬▬ ▬▬ ▬▬ ▬▬▬ ▬ ▬▬▬▬ ▬▬ ▬▬▬ ▬▬ ▬ ▬▬▬ ▬▬▬▬ ▬▬ ▬ ▬▬▬ ▬▬ ▬▬ ▬▬▬ ▬ ▬▬▬▬ ▬▬ ▬▬▬ ▬▬ ▬ ▬▬▬ ▬▬▬▬ ▬▬ ▬ ▬▬▬ ▬▬ ▬▬ ▬▬▬ ▬ ▬▬▬▬ ▬▬ ▬▬▬ ▬▬ ▬ ▬▬▬ ▬▬▬▬ ▬▬ ▬ ▬▬▬ ▬▬ ▬▬ ▬▬▬ ▬ ▬▬▬▬ ▬▬ ▬▬▬ ▬▬ ▬ ▬▬▬ ▬▬▬▬ ▬▬ ▬ ▬▬▬ ▬▬ ▬▬ ▬▬▬ ▬ ▬▬▬▬ ▬▬ ▬▬▬ ▬▬ ▬ ▬▬▬ ▬▬▬▬ ▬▬ ▬ ▬▬▬ ▬▬ ▬▬ ▬▬▬ ▬ ▬▬▬▬ ▬▬ ▬▬▬ ▬▬ ▬ ▬▬▬ ▬▬▬▬ ▬▬ ▬ ▬▬▬ ▬▬ ▬▬ ▬▬▬ ▬ ▬▬▬▬ ▬▬ ▬▬▬ ▬▬ ▬ ▬▬▬ ▬▬▬▬ ▬▬ ▬ ▬▬▬ ▬▬ ▬▬ ▬▬▬ ▬ ▬▬▬▬ ▬▬ ▬▬▬ ▬▬ ▬ ▬▬▬ ▬▬▬▬ ▬▬ ▬ ▬▬▬ ▬▬ ▬▬ ▬▬▬ ▬ ▬▬▬▬ ▬▬ ▬▬▬ ▬▬ ▬ ▬▬▬ ▬▬▬▬ ▬▬ ▬ ▬▬▬ ▬▬ ▬▬ ▬▬▬ ▬ ▬▬▬▬ ▬▬ ▬▬▬ ▬▬ ▬ ▬▬▬ ▬▬▬▬ ▬▬ ▬ ▬▬▬ ▬▬ ▬▬ ▬▬▬ ▬ ▬▬▬▬ ▬▬ ▬▬▬ ▬▬ ▬ ▬▬▬ ▬▬▬▬ ▬▬ ▬ ▬▬▬ ▬▬ ▬▬ ▬▬▬ ▬ ▬▬▬▬ ▬▬ ▬▬▬ ▬▬ ▬ ▬▬▬ ▬▬▬▬ ▬▬ ▬ ▬▬▬ ▬▬ ▬▬ ▬▬▬ ▬ ▬▬▬▬ ▬▬ ▬▬▬ ▬▬ ▬ ▬▬▬ ▬▬▬▬ ▬▬ ▬ ▬▬▬ ▬▬ ▬▬ ▬▬▬ ▬ ▬▬▬▬ ▬▬ ▬▬▬ ▬▬ ▬ ▬▬▬ ▬▬▬▬ ▬▬ ▬ ▬▬▬ ▬▬ ▬▬ ▬▬▬ ▬ ▬▬▬▬ ▬▬ ▬▬▬ ▬▬ ▬ ▬▬▬ ▬▬▬▬ ▬▬ ▬ ▬▬▬ ▬▬ ▬▬ ▬▬▬ ▬ ▬▬▬▬ ▬▬ ▬▬▬ ▬▬ ▬ ▬▬▬ ▬▬▬▬ ▬▬ ▬ ▬▬▬ ▬▬ ▬▬ ▬▬▬ ▬ ▬▬▬▬ ▬▬ ▬▬▬ ▬▬ ▬ ▬▬▬ ▬▬▬▬ ▬▬ ▬ ▬▬▬ ▬▬ ▬▬ ▬▬▬ ▬ ▬▬▬▬ ▬▬ ▬▬▬ ▬▬ ▬ ▬▬▬ ▬▬▬▬ ▬▬ ▬ ▬▬▬ ▬▬ ▬▬ ▬▬▬ ▬ ▬▬▬▬ ▬▬ ▬▬▬ ▬▬ ▬ ▬▬▬ ▬▬▬▬ ▬▬ ▬ ▬▬▬ ▬▬ ▬▬ ▬▬▬ ▬ ▬▬▬▬ ▬▬ ▬▬▬ ▬▬ ▬ ▬▬▬ ▬▬▬▬ ▬▬ ▬ ▬▬▬ ▬▬ ▬▬ ▬▬▬ ▬ ▬▬▬▬ ▬▬ ▬▬▬ ▬▬ ▬ ▬▬▬ ▬▬▬▬ ▬▬ ▬ ▬▬▬ ▬▬ ▬▬ ▬▬▬ ▬ ▬▬▬▬ ▬▬ ▬▬▬ ▬▬ ▬ ▬▬▬ ▬▬▬▬ ▬▬ ▬ ▬▬▬ ▬▬ ▬▬ ▬▬▬ ▬ ▬▬▬▬ ▬▬ ▬▬▬ ▬▬ ▬ ▬▬▬ ▬▬▬▬ ▬▬ ▬ ▬▬▬ ▬▬ ▬▬ ▬▬▬ ▬ ▬▬▬▬ ▬▬ ▬▬▬ ▬▬ ▬ ▬▬▬ ▬▬▬▬ ▬▬ ▬ ▬▬▬ ▬▬
▬▬ ▬▬▬ ▬ ▬▬▬▬ ▬▬ ▬▬▬ ▬▬ ▬ ▬▬▬ ▬▬▬▬ ▬▬ ▬ ▬▬▬ ▬▬ ▬▬ ▬▬▬ ▬ ▬▬▬▬ ▬▬ ▬▬▬ ▬▬ ▬ ▬▬▬ ▬▬▬▬ ▬▬ ▬ ▬▬▬ ▬▬ ▬▬ ▬▬▬ ▬ ▬▬▬▬ ▬▬ ▬▬▬ ▬▬ ▬ ▬▬▬ ▬▬▬▬ ▬▬ ▬ ▬▬▬ ▬▬ ▬▬ ▬▬▬ ▬ ▬▬▬▬ ▬▬ ▬▬▬ ▬▬ ▬ ▬▬▬ ▬▬▬▬ ▬▬ ▬ ▬▬▬ ▬▬ ▬▬ ▬▬▬ ▬ ▬▬▬▬ ▬▬ ▬▬▬ ▬▬ ▬ ▬▬▬ ▬▬▬▬ ▬▬ ▬ ▬▬▬ ▬▬ ▬▬ ▬▬▬ ▬ ▬▬▬▬ ▬▬ ▬▬▬ ▬▬ ▬ ▬▬▬ ▬▬▬▬ ▬▬ ▬ ▬▬▬ ▬▬ ▬▬ ▬▬▬ ▬ ▬▬▬▬ ▬▬ ▬▬▬ ▬▬ ▬ ▬▬▬ ▬▬▬▬ ▬▬ ▬ ▬▬▬ ▬▬ ▬▬ ▬▬▬ ▬ ▬▬▬▬ ▬▬ ▬▬▬ ▬▬ ▬ ▬▬▬ ▬▬▬▬ ▬▬ ▬ ▬▬▬ ▬▬ ▬▬ ▬▬▬ ▬ ▬▬▬▬ ▬▬ ▬▬▬ ▬▬ ▬ ▬▬▬ ▬▬▬▬ ▬▬ ▬ ▬▬▬ ▬▬ ▬▬ ▬▬▬ ▬ ▬▬▬▬ ▬▬ ▬▬▬ ▬▬ ▬ ▬▬▬ ▬▬▬▬ ▬▬ ▬ ▬▬▬ ▬▬ ▬▬ ▬▬▬ ▬ ▬▬▬▬ ▬▬ ▬▬▬ ▬▬ ▬ ▬▬▬ ▬▬▬▬ ▬▬ ▬ ▬▬▬ ▬▬ ▬▬ ▬▬▬ ▬ ▬▬▬▬ ▬▬ ▬▬▬ ▬▬ ▬ ▬▬▬ ▬▬▬▬ ▬▬ ▬ ▬▬▬ ▬▬ ▬▬ ▬▬▬ ▬ ▬▬▬▬ ▬▬ ▬▬▬ ▬▬ ▬ ▬▬▬ ▬▬▬▬ ▬▬ ▬ ▬▬▬ ▬▬ ▬▬ ▬▬▬ ▬ ▬▬▬▬ ▬▬ ▬▬▬ ▬▬ ▬ ▬▬▬ ▬▬▬▬ ▬▬ ▬ ▬▬▬ ▬▬ ▬▬ ▬▬▬ ▬ ▬▬▬▬ ▬▬ ▬▬▬ ▬▬ ▬ ▬▬▬ ▬▬▬▬ ▬▬ ▬ ▬▬▬ ▬▬ ▬▬ ▬▬▬ ▬ ▬▬▬▬ ▬▬ ▬▬▬ ▬▬ ▬ ▬▬▬ ▬▬▬▬ ▬▬ ▬ ▬▬▬ ▬▬ ▬▬ ▬▬▬ ▬ ▬▬▬▬ ▬▬ ▬▬▬ ▬▬ ▬ ▬▬▬ ▬▬▬▬ ▬▬ ▬ ▬▬▬ ▬▬ ▬▬ ▬▬▬ ▬ ▬▬▬▬ ▬▬ ▬▬▬ ▬▬ ▬ ▬▬▬ ▬▬▬▬ ▬▬ ▬ ▬▬▬ ▬▬ ▬▬ ▬▬▬ ▬ ▬▬▬▬ ▬▬ ▬▬▬ ▬▬ ▬ ▬▬▬ ▬▬▬▬ ▬▬ ▬ ▬▬▬ ▬▬ ▬▬ ▬▬▬ ▬ ▬▬▬▬ ▬▬ ▬▬▬ ▬▬ ▬ ▬▬▬ ▬▬▬▬ ▬▬ ▬ ▬▬▬ ▬▬ ▬▬ ▬▬▬ ▬ ▬▬▬▬ ▬▬ ▬▬▬ ▬▬ ▬ ▬▬▬ ▬▬▬▬ ▬▬ ▬ ▬▬▬ ▬▬ ▬▬ ▬▬▬ ▬ ▬▬▬▬ ▬▬ ▬▬▬ ▬▬ ▬ ▬▬▬ ▬▬▬▬ ▬▬ ▬ ▬▬▬ ▬▬ ▬▬ ▬▬▬ ▬ ▬▬▬▬ ▬▬ ▬▬▬ ▬▬ ▬ ▬▬▬ ▬▬▬▬ ▬▬ ▬ ▬▬▬ ▬▬ ▬▬ ▬▬▬ ▬ ▬▬▬▬ ▬▬ ▬▬▬ ▬▬ ▬ ▬▬▬ ▬▬▬▬ ▬▬ ▬ ▬▬▬ ▬▬ ▬▬ ▬▬▬ ▬ ▬▬▬▬ ▬▬ ▬▬▬ ▬▬ ▬ ▬▬▬ ▬▬▬▬ ▬▬ ▬ ▬▬▬ ▬▬ ▬▬ ▬▬▬ ▬ ▬▬▬▬ ▬▬ ▬▬▬ ▬▬ ▬ ▬▬▬ ▬▬▬▬ ▬▬ ▬ ▬▬▬ ▬▬ ▬▬ ▬▬▬ ▬ ▬▬▬▬ ▬▬ ▬▬▬ ▬▬ ▬ ▬▬▬ ▬▬▬▬ ▬▬ ▬ ▬▬▬ ▬▬ ▬▬ ▬▬▬ ▬ ▬▬▬▬ ▬▬ ▬▬▬ ▬▬ ▬ ▬▬▬ ▬▬▬▬ ▬▬ ▬ ▬▬▬ ▬▬ ▬▬ ▬▬▬ ▬ ▬▬▬▬ ▬▬ ▬▬▬ ▬▬ ▬ ▬▬▬ ▬▬▬▬ ▬▬ ▬ ▬▬▬ ▬▬ ▬▬ ▬▬▬ ▬ ▬▬▬▬ ▬▬ ▬▬▬ ▬▬ ▬ ▬▬▬ ▬▬▬▬ ▬▬ ▬ ▬▬▬ ▬▬ ▬▬ ▬▬▬ ▬ ▬▬▬▬ ▬▬ ▬▬▬ ▬▬ ▬ ▬▬▬ ▬▬▬▬ ▬▬ ▬ ▬▬▬ ▬▬ ▬▬ ▬▬▬ ▬ ▬▬▬▬ ▬▬ ▬▬▬ ▬▬ ▬ ▬▬▬ ▬▬▬▬ ▬▬ ▬ ▬▬▬ ▬▬ ▬▬ ▬▬▬ ▬ ▬▬▬▬ ▬▬ ▬▬▬ ▬▬ ▬ ▬▬▬ ▬▬▬▬ ▬▬ ▬ ▬▬▬ ▬▬ ▬▬ ▬▬▬ ▬ ▬▬▬▬ ▬▬ ▬▬▬ ▬▬ ▬ ▬▬▬ ▬▬▬▬ ▬▬ ▬ ▬▬▬ ▬▬ ▬▬ ▬▬▬ ▬ ▬▬▬▬ ▬▬ ▬▬▬ ▬▬ ▬ ▬▬▬ ▬▬▬▬ ▬▬ ▬ ▬▬▬ ▬▬ ▬▬ ▬▬▬ ▬ ▬▬▬▬ ▬▬ ▬▬▬ ▬▬ ▬ ▬▬▬ ▬▬▬▬ ▬▬ ▬ ▬▬▬ ▬▬ ▬▬ ▬▬▬ ▬ ▬▬▬▬ ▬▬ ▬▬▬ ▬▬ ▬ ▬▬▬ ▬▬▬▬ ▬▬ ▬ ▬▬▬ ▬▬ ▬▬ ▬▬▬ ▬ ▬▬▬▬ ▬▬ ▬▬▬ ▬▬ ▬ ▬▬▬ ▬▬▬▬ ▬▬ ▬ ▬▬▬ ▬▬ ▬▬ ▬▬▬ ▬ ▬▬▬▬ ▬▬ ▬▬▬ ▬▬ ▬ ▬▬▬ ▬▬▬▬ ▬▬ ▬ ▬▬▬ ▬▬ ▬▬ ▬▬▬ ▬ ▬▬▬▬ ▬▬ ▬▬▬ ▬▬ ▬ ▬▬▬ ▬▬▬▬ ▬▬ ▬ ▬▬▬ ▬▬ ▬▬ ▬▬▬ ▬ ▬▬▬▬ ▬▬ ▬▬▬ ▬▬ ▬ ▬▬▬ ▬▬▬▬ ▬▬ ▬ ▬▬▬ ▬▬ ▬▬ ▬▬▬ ▬ ▬▬▬▬ ▬▬ ▬▬▬ ▬▬ ▬ ▬▬▬ ▬▬▬▬ ▬▬ ▬ ▬▬▬ ▬▬ ▬▬ ▬▬▬ ▬ ▬▬▬▬ ▬▬ ▬▬▬ ▬▬ ▬ ▬▬▬ ▬▬▬▬ ▬▬ ▬ ▬▬▬ ▬▬ ▬▬ ▬▬▬ ▬ ▬▬▬▬ ▬▬ ▬▬▬ ▬▬ ▬ ▬▬▬ ▬▬▬▬ ▬▬ ▬ ▬▬▬ ▬▬ ▬▬ ▬▬▬ ▬ ▬▬▬▬ ▬▬ ▬▬▬ ▬▬ ▬ ▬▬▬ ▬▬▬▬ ▬▬ ▬ ▬▬▬ ▬▬ ▬▬ ▬▬▬ ▬ ▬▬▬▬ ▬▬ ▬▬▬ ▬▬ ▬ ▬▬▬ ▬▬▬▬ ▬▬ ▬ ▬▬▬ ▬▬ ▬▬ ▬▬▬ ▬ ▬▬▬▬ ▬▬ ▬▬▬ ▬▬ ▬ ▬▬▬ ▬▬▬▬ ▬▬ ▬ ▬▬▬ ▬▬ ▬▬ ▬▬▬ ▬ ▬▬▬▬ ▬▬ ▬▬▬ ▬▬ ▬ ▬▬▬ ▬▬▬▬ ▬▬ ▬ ▬▬▬ ▬▬ ▬▬ ▬▬▬ ▬ ▬▬▬▬ ▬▬ ▬▬▬ ▬▬ ▬ ▬▬▬ ▬▬▬▬ ▬▬ ▬ ▬▬▬ ▬▬ ▬▬ ▬▬▬ ▬ ▬▬▬▬ ▬▬ ▬▬▬ ▬▬ ▬ ▬▬▬ ▬▬▬▬ ▬▬ ▬ ▬▬▬ ▬▬ ▬▬ ▬▬▬ ▬ ▬▬▬▬ ▬▬ ▬▬▬ ▬▬ ▬ ▬▬▬ ▬▬▬▬ ▬▬ ▬ ▬▬▬ ▬▬ ▬▬ ▬▬▬ ▬ ▬▬▬▬ ▬▬ ▬▬▬ ▬▬ ▬ ▬▬▬ ▬▬▬▬ ▬▬ ▬ ▬▬▬ ▬▬ ▬▬ ▬▬▬ ▬ ▬▬▬▬ ▬▬ ▬▬▬ ▬▬ ▬ ▬▬▬ ▬▬▬▬ ▬▬ ▬ ▬▬▬ ▬▬ ▬▬ ▬▬▬ ▬ ▬▬▬▬ ▬▬ ▬▬▬ ▬▬ ▬ ▬▬▬ ▬▬▬▬ ▬▬ ▬ ▬▬▬ ▬▬ ▬▬ ▬▬▬ ▬ ▬▬▬▬ ▬▬ ▬▬▬ ▬▬ ▬ ▬▬▬ ▬▬▬▬ ▬▬ ▬ ▬▬▬ ▬▬ ▬▬ ▬▬▬ ▬ ▬▬▬▬ ▬▬ ▬▬▬ ▬▬ ▬ ▬▬▬ ▬▬▬▬ ▬▬ ▬ ▬▬▬ ▬▬ ▬▬ ▬▬▬ ▬ ▬▬▬▬ ▬▬ ▬▬▬ ▬▬ ▬ ▬▬▬ ▬▬▬▬ ▬▬ ▬ ▬▬▬ ▬▬ ▬▬ ▬▬▬ ▬ ▬▬▬▬ ▬▬ ▬▬▬ ▬▬ ▬ ▬▬▬ ▬▬▬▬ ▬▬ ▬ ▬▬▬ ▬▬ ▬▬ ▬▬▬ ▬ ▬▬▬▬ ▬▬ ▬▬▬ ▬▬ ▬ ▬▬▬ ▬▬▬▬ ▬▬ ▬ ▬▬▬ ▬▬ ▬▬ ▬▬▬ ▬ ▬▬▬▬ ▬▬ ▬▬▬ ▬▬ ▬ ▬▬▬ ▬▬▬▬ ▬▬ ▬ ▬▬▬ ▬▬
क्रिक रीड
व्रत रखकर मनाई सफला एकादशी
▬▬ ▬▬▬ ▬ ▬▬▬▬ ▬▬ ▬▬▬ ▬▬ ▬ ▬▬▬ ▬▬▬▬ ▬▬ ▬ ▬▬▬ ▬▬ ▬▬ ▬▬▬ ▬ ▬▬▬▬ ▬▬ ▬▬▬ ▬▬ ▬ ▬▬▬ ▬▬▬▬ ▬▬ ▬ ▬▬▬ ▬▬ ▬▬ ▬▬▬ ▬ ▬▬▬▬ ▬▬ ▬▬▬ ▬▬ ▬ ▬▬▬ ▬▬▬▬ ▬▬ ▬ ▬▬▬ ▬▬ ▬▬ ▬▬▬ ▬ ▬▬▬▬ ▬▬ ▬▬▬ ▬▬ ▬ ▬▬▬ ▬▬▬▬ ▬▬ ▬ ▬▬▬ ▬▬ ▬▬ ▬▬▬ ▬ ▬▬▬▬ ▬▬ ▬▬▬ ▬▬ ▬ ▬▬▬ ▬▬▬▬ ▬▬ ▬ ▬▬▬ ▬▬ ▬▬ ▬▬▬ ▬ ▬▬▬▬ ▬▬ ▬▬▬ ▬▬ ▬ ▬▬▬ ▬▬▬▬ ▬▬ ▬ ▬▬▬ ▬▬ ▬▬ ▬▬▬ ▬ ▬▬▬▬ ▬▬ ▬▬▬ ▬▬ ▬ ▬▬▬ ▬▬▬▬ ▬▬ ▬ ▬▬▬ ▬▬ ▬▬ ▬▬▬ ▬ ▬▬▬▬ ▬▬ ▬▬▬ ▬▬ ▬ ▬▬▬ ▬▬▬▬ ▬▬ ▬ ▬▬▬ ▬▬ ▬▬ ▬▬▬ ▬ ▬▬▬▬ ▬▬ ▬▬▬ ▬▬ ▬ ▬▬▬ ▬▬▬▬ ▬▬ ▬ ▬▬▬ ▬▬ ▬▬ ▬▬▬ ▬ ▬▬▬▬ ▬▬ ▬▬▬ ▬▬ ▬ ▬▬▬ ▬▬▬▬ ▬▬ ▬ ▬▬▬ ▬▬ ▬▬ ▬▬▬ ▬ ▬▬▬▬ ▬▬ ▬▬▬ ▬▬ ▬ ▬▬▬ ▬▬▬▬ ▬▬ ▬ ▬▬▬ ▬▬ ▬▬ ▬▬▬ ▬ ▬▬▬▬ ▬▬ ▬▬▬ ▬▬ ▬ ▬▬▬ ▬▬▬▬ ▬▬ ▬ ▬▬▬ ▬▬ ▬▬ ▬▬▬ ▬ ▬▬▬▬ ▬▬ ▬▬▬ ▬▬ ▬ ▬▬▬ ▬▬▬▬ ▬▬ ▬ ▬▬▬ ▬▬ ▬▬ ▬▬▬ ▬ ▬▬▬▬ ▬▬ ▬▬▬ ▬▬ ▬ ▬▬▬ ▬▬▬▬ ▬▬ ▬ ▬▬▬ ▬▬ ▬▬ ▬▬▬ ▬ ▬▬▬▬ ▬▬ ▬▬▬ ▬▬ ▬ ▬▬▬ ▬▬▬▬ ▬▬ ▬ ▬▬▬ ▬▬ ▬▬ ▬▬▬ ▬ ▬▬▬▬ ▬▬ ▬▬▬ ▬▬ ▬ ▬▬▬ ▬▬▬▬ ▬▬ ▬ ▬▬▬ ▬▬ ▬▬ ▬▬▬ ▬ ▬▬▬▬ ▬▬ ▬▬▬ ▬▬ ▬ ▬▬▬ ▬▬▬▬ ▬▬ ▬ ▬▬▬ ▬▬ ▬▬ ▬▬▬ ▬ ▬▬▬▬ ▬▬ ▬▬▬ ▬▬ ▬ ▬▬▬ ▬▬▬▬ ▬▬ ▬ ▬▬▬ ▬▬ ▬▬ ▬▬▬ ▬ ▬▬▬▬ ▬▬ ▬▬▬ ▬▬ ▬ ▬▬▬ ▬▬▬▬ ▬▬ ▬ ▬▬▬ ▬▬ ▬▬ ▬▬▬ ▬ ▬▬▬▬ ▬▬ ▬▬▬ ▬▬ ▬ ▬▬▬ ▬▬▬▬ ▬▬ ▬ ▬▬▬ ▬▬ ▬▬ ▬▬▬ ▬ ▬▬▬▬ ▬▬ ▬▬▬ ▬▬ ▬ ▬▬▬ ▬▬▬▬ ▬▬ ▬ ▬▬▬ ▬▬ ▬▬ ▬▬▬ ▬ ▬▬▬▬ ▬▬ ▬▬▬ ▬▬ ▬ ▬▬▬ ▬▬▬▬ ▬▬ ▬ ▬▬▬ ▬▬ ▬▬ ▬▬▬ ▬ ▬▬▬▬ ▬▬ ▬▬▬ ▬▬ ▬ ▬▬▬ ▬▬▬▬ ▬▬ ▬ ▬▬▬ ▬▬ ▬▬ ▬▬▬ ▬ ▬▬▬▬ ▬▬ ▬▬▬ ▬▬ ▬ ▬▬▬ ▬▬▬▬ ▬▬ ▬ ▬▬▬ ▬▬ ▬▬ ▬▬▬ ▬ ▬▬▬▬ ▬▬ ▬▬▬ ▬▬ ▬ ▬▬▬ ▬▬▬▬ ▬▬ ▬ ▬▬▬ ▬▬ ▬▬ ▬▬▬ ▬ ▬▬▬▬ ▬▬ ▬▬▬ ▬▬ ▬ ▬▬▬ ▬▬▬▬ ▬▬ ▬ ▬▬▬ ▬▬ ▬▬ ▬▬▬ ▬ ▬▬▬▬ ▬▬ ▬▬▬ ▬▬ ▬ ▬▬▬ ▬▬▬▬ ▬▬ ▬ ▬▬▬ ▬▬ ▬▬ ▬▬▬ ▬ ▬▬▬▬ ▬▬ ▬▬▬ ▬▬ ▬ ▬▬▬ ▬▬▬▬ ▬▬ ▬ ▬▬▬ ▬▬ ▬▬ ▬▬▬ ▬ ▬▬▬▬ ▬▬ ▬▬▬ ▬▬ ▬ ▬▬▬ ▬▬▬▬ ▬▬ ▬ ▬▬▬ ▬▬ ▬▬ ▬▬▬ ▬ ▬▬▬▬ ▬▬ ▬▬▬ ▬▬ ▬ ▬▬▬ ▬▬▬▬ ▬▬ ▬ ▬▬▬ ▬▬ ▬▬ ▬▬▬ ▬ ▬▬▬▬ ▬▬ ▬▬▬ ▬▬ ▬ ▬▬▬ ▬▬▬▬ ▬▬ ▬ ▬▬▬ ▬▬ ▬▬ ▬▬▬ ▬ ▬▬▬▬ ▬▬ ▬▬▬ ▬▬ ▬ ▬▬▬ ▬▬▬▬ ▬▬ ▬ ▬▬▬ ▬▬ ▬▬ ▬▬▬ ▬ ▬▬▬▬ ▬▬ ▬▬▬ ▬▬ ▬ ▬▬▬ ▬▬▬▬ ▬▬ ▬ ▬▬▬ ▬▬ ▬▬ ▬▬▬ ▬ ▬▬▬▬ ▬▬ ▬▬▬ ▬▬ ▬ ▬▬▬ ▬▬▬▬ ▬▬ ▬ ▬▬▬ ▬▬ ▬▬ ▬▬▬ ▬ ▬▬▬▬ ▬▬ ▬▬▬ ▬▬ ▬ ▬▬▬ ▬▬▬▬ ▬▬ ▬ ▬▬▬ ▬▬ ▬▬ ▬▬▬ ▬ ▬▬▬▬ ▬▬ ▬▬▬ ▬▬ ▬ ▬▬▬ ▬▬▬▬ ▬▬ ▬ ▬▬▬ ▬▬ ▬▬ ▬▬▬ ▬ ▬▬▬▬ ▬▬ ▬▬▬ ▬▬ ▬ ▬▬▬ ▬▬▬▬ ▬▬ ▬ ▬▬▬ ▬▬ ▬▬ ▬▬▬ ▬ ▬▬▬▬ ▬▬ ▬▬▬ ▬▬ ▬ ▬▬▬ ▬▬▬▬ ▬▬ ▬ ▬▬▬ ▬▬ ▬▬ ▬▬▬ ▬ ▬▬▬▬ ▬▬ ▬▬▬ ▬▬ ▬ ▬▬▬ ▬▬▬▬ ▬▬ ▬ ▬▬▬ ▬▬ ▬▬ ▬▬▬ ▬ ▬▬▬▬ ▬▬ ▬▬▬ ▬▬ ▬ ▬▬▬ ▬▬▬▬ ▬▬ ▬ ▬▬▬ ▬▬ ▬▬ ▬▬▬ ▬ ▬▬▬▬ ▬▬ ▬▬▬ ▬▬ ▬ ▬▬▬ ▬▬▬▬ ▬▬ ▬ ▬▬▬ ▬▬ ▬▬ ▬▬▬ ▬ ▬▬▬▬ ▬▬ ▬▬▬ ▬▬ ▬ ▬▬▬ ▬▬▬▬ ▬▬ ▬ ▬▬▬ ▬▬ ▬▬ ▬▬▬ ▬ ▬▬▬▬ ▬▬ ▬▬▬ ▬▬ ▬ ▬▬▬ ▬▬▬▬ ▬▬ ▬ ▬▬▬ ▬▬ ▬▬ ▬▬▬ ▬ ▬▬▬▬ ▬▬ ▬▬▬ ▬▬ ▬ ▬▬▬ ▬▬▬▬ ▬▬ ▬ ▬▬▬ ▬▬ ▬▬ ▬▬▬ ▬ ▬▬▬▬ ▬▬ ▬▬▬ ▬▬ ▬ ▬▬▬ ▬▬▬▬ ▬▬ ▬ ▬▬▬ ▬▬ ▬▬ ▬▬▬ ▬ ▬▬▬▬ ▬▬ ▬▬▬ ▬▬ ▬ ▬▬▬ ▬▬▬▬ ▬▬ ▬ ▬▬▬ ▬▬ ▬▬ ▬▬▬ ▬ ▬▬▬▬ ▬▬ ▬▬▬ ▬▬ ▬ ▬▬▬ ▬▬▬▬ ▬▬ ▬ ▬▬▬ ▬▬ ▬▬ ▬▬▬ ▬ ▬▬▬▬ ▬▬ ▬▬▬ ▬▬ ▬ ▬▬▬ ▬▬▬▬ ▬▬ ▬ ▬▬▬ ▬▬ ▬▬ ▬▬▬ ▬ ▬▬▬▬ ▬▬ ▬▬▬ ▬▬ ▬ ▬▬▬ ▬▬▬▬ ▬▬ ▬ ▬▬▬ ▬▬ ▬▬ ▬▬▬ ▬ ▬▬▬▬ ▬▬ ▬▬▬ ▬▬ ▬ ▬▬▬ ▬▬▬▬ ▬▬ ▬ ▬▬▬ ▬▬ ▬▬ ▬▬▬ ▬ ▬▬▬▬ ▬▬ ▬▬▬ ▬▬ ▬ ▬▬▬ ▬▬▬▬ ▬▬ ▬ ▬▬▬ ▬▬ ▬▬ ▬▬▬ ▬ ▬▬▬▬ ▬▬ ▬▬▬ ▬▬ ▬ ▬▬▬ ▬▬▬▬ ▬▬ ▬ ▬▬▬ ▬▬ ▬▬ ▬▬▬ ▬ ▬▬▬▬ ▬▬ ▬▬▬ ▬▬ ▬ ▬▬▬ ▬▬▬▬ ▬▬ ▬ ▬▬▬ ▬▬ ▬▬ ▬▬▬ ▬ ▬▬▬▬ ▬▬ ▬▬▬ ▬▬ ▬ ▬▬▬ ▬▬▬▬ ▬▬ ▬ ▬▬▬ ▬▬ ▬▬ ▬▬▬ ▬ ▬▬▬▬ ▬▬ ▬▬▬ ▬▬ ▬ ▬▬▬ ▬▬▬▬ ▬▬ ▬ ▬▬▬ ▬▬ ▬▬ ▬▬▬ ▬ ▬▬▬▬ ▬▬ ▬▬▬ ▬▬ ▬ ▬▬▬ ▬▬▬▬ ▬▬ ▬ ▬▬▬ ▬▬ ▬▬ ▬▬▬ ▬ ▬▬▬▬ ▬▬ ▬▬▬ ▬▬ ▬ ▬▬▬ ▬▬▬▬ ▬▬ ▬ ▬▬▬ ▬▬ ▬▬ ▬▬▬ ▬ ▬▬▬▬ ▬▬ ▬▬▬ ▬▬ ▬ ▬▬▬ ▬▬▬▬ ▬▬ ▬ ▬▬▬ ▬▬ ▬▬ ▬▬▬ ▬ ▬▬▬▬ ▬▬ ▬▬▬ ▬▬ ▬ ▬▬▬ ▬▬▬▬ ▬▬ ▬ ▬▬▬ ▬▬ ▬▬ ▬▬▬ ▬ ▬▬▬▬ ▬▬ ▬▬▬ ▬▬ ▬ ▬▬▬ ▬▬▬▬ ▬▬ ▬ ▬▬▬ ▬▬
समाधान शिविर में 12 शिकायतें मिलीं
▬▬ ▬▬▬ ▬ ▬▬▬▬ ▬▬ ▬▬▬ ▬▬ ▬ ▬▬▬ ▬▬▬▬ ▬▬ ▬ ▬▬▬ ▬▬ ▬▬ ▬▬▬ ▬ ▬▬▬▬ ▬▬ ▬▬▬ ▬▬ ▬ ▬▬▬ ▬▬▬▬ ▬▬ ▬ ▬▬▬ ▬▬ ▬▬ ▬▬▬ ▬ ▬▬▬▬ ▬▬ ▬▬▬ ▬▬ ▬ ▬▬▬ ▬▬▬▬ ▬▬ ▬ ▬▬▬ ▬▬ ▬▬ ▬▬▬ ▬ ▬▬▬▬ ▬▬ ▬▬▬ ▬▬ ▬ ▬▬▬ ▬▬▬▬ ▬▬ ▬ ▬▬▬ ▬▬ ▬▬ ▬▬▬ ▬ ▬▬▬▬ ▬▬ ▬▬▬ ▬▬ ▬ ▬▬▬ ▬▬▬▬ ▬▬ ▬ ▬▬▬ ▬▬ ▬▬ ▬▬▬ ▬ ▬▬▬▬ ▬▬ ▬▬▬ ▬▬ ▬ ▬▬▬ ▬▬▬▬ ▬▬ ▬ ▬▬▬ ▬▬ ▬▬ ▬▬▬ ▬ ▬▬▬▬ ▬▬ ▬▬▬ ▬▬ ▬ ▬▬▬ ▬▬▬▬ ▬▬ ▬ ▬▬▬ ▬▬ ▬▬ ▬▬▬ ▬ ▬▬▬▬ ▬▬ ▬▬▬ ▬▬ ▬ ▬▬▬ ▬▬▬▬ ▬▬ ▬ ▬▬▬ ▬▬ ▬▬ ▬▬▬ ▬ ▬▬▬▬ ▬▬ ▬▬▬ ▬▬ ▬ ▬▬▬ ▬▬▬▬ ▬▬ ▬ ▬▬▬ ▬▬ ▬▬ ▬▬▬ ▬ ▬▬▬▬ ▬▬ ▬▬▬ ▬▬ ▬ ▬▬▬ ▬▬▬▬ ▬▬ ▬ ▬▬▬ ▬▬ ▬▬ ▬▬▬ ▬ ▬▬▬▬ ▬▬ ▬▬▬ ▬▬ ▬ ▬▬▬ ▬▬▬▬ ▬▬ ▬ ▬▬▬ ▬▬ ▬▬ ▬▬▬ ▬ ▬▬▬▬ ▬▬ ▬▬▬ ▬▬ ▬ ▬▬▬ ▬▬▬▬ ▬▬ ▬ ▬▬▬ ▬▬ ▬▬ ▬▬▬ ▬ ▬▬▬▬ ▬▬ ▬▬▬ ▬▬ ▬ ▬▬▬ ▬▬▬▬ ▬▬ ▬ ▬▬▬ ▬▬ ▬▬ ▬▬▬ ▬ ▬▬▬▬ ▬▬ ▬▬▬ ▬▬ ▬ ▬▬▬ ▬▬▬▬ ▬▬ ▬ ▬▬▬ ▬▬ ▬▬ ▬▬▬ ▬ ▬▬▬▬ ▬▬ ▬▬▬ ▬▬ ▬ ▬▬▬ ▬▬▬▬ ▬▬ ▬ ▬▬▬ ▬▬ ▬▬ ▬▬▬ ▬ ▬▬▬▬ ▬▬ ▬▬▬ ▬▬ ▬ ▬▬▬ ▬▬▬▬ ▬▬ ▬ ▬▬▬ ▬▬ ▬▬ ▬▬▬ ▬ ▬▬▬▬ ▬▬ ▬▬▬ ▬▬ ▬ ▬▬▬ ▬▬▬▬ ▬▬ ▬ ▬▬▬ ▬▬ ▬▬ ▬▬▬ ▬ ▬▬▬▬ ▬▬ ▬▬▬ ▬▬ ▬ ▬▬▬ ▬▬▬▬ ▬▬ ▬ ▬▬▬ ▬▬ ▬▬ ▬▬▬ ▬ ▬▬▬▬ ▬▬ ▬▬▬ ▬▬ ▬ ▬▬▬ ▬▬▬▬ ▬▬ ▬ ▬▬▬ ▬▬ ▬▬ ▬▬▬ ▬ ▬▬▬▬ ▬▬ ▬▬▬ ▬▬ ▬ ▬▬▬ ▬▬▬▬ ▬▬ ▬ ▬▬▬ ▬▬ ▬▬ ▬▬▬ ▬ ▬▬▬▬ ▬▬ ▬▬▬ ▬▬ ▬ ▬▬▬ ▬▬▬▬ ▬▬ ▬ ▬▬▬ ▬▬ ▬▬ ▬▬▬ ▬ ▬▬▬▬ ▬▬ ▬▬▬ ▬▬ ▬ ▬▬▬ ▬▬▬▬ ▬▬ ▬ ▬▬▬ ▬▬ ▬▬ ▬▬▬ ▬ ▬▬▬▬ ▬▬ ▬▬▬ ▬▬ ▬ ▬▬▬ ▬▬▬▬ ▬▬ ▬ ▬▬▬ ▬▬ ▬▬ ▬▬▬ ▬ ▬▬▬▬ ▬▬ ▬▬▬ ▬▬ ▬ ▬▬▬ ▬▬▬▬ ▬▬ ▬ ▬▬▬ ▬▬ ▬▬ ▬▬▬ ▬ ▬▬▬▬ ▬▬ ▬▬▬ ▬▬ ▬ ▬▬▬ ▬▬▬▬ ▬▬ ▬ ▬▬▬ ▬▬ ▬▬ ▬▬▬ ▬ ▬▬▬▬ ▬▬ ▬▬▬ ▬▬ ▬ ▬▬▬ ▬▬▬▬ ▬▬ ▬ ▬▬▬ ▬▬ ▬▬ ▬▬▬ ▬ ▬▬▬▬ ▬▬ ▬▬▬ ▬▬ ▬ ▬▬▬ ▬▬▬▬ ▬▬ ▬ ▬▬▬ ▬▬ ▬▬ ▬▬▬ ▬ ▬▬▬▬ ▬▬ ▬▬▬ ▬▬ ▬ ▬▬▬ ▬▬▬▬ ▬▬ ▬ ▬▬▬ ▬▬ ▬▬ ▬▬▬ ▬ ▬▬▬▬ ▬▬ ▬▬▬ ▬▬ ▬ ▬▬▬ ▬▬▬▬ ▬▬ ▬ ▬▬▬ ▬▬ ▬▬ ▬▬▬ ▬ ▬▬▬▬ ▬▬ ▬▬▬ ▬▬ ▬ ▬▬▬ ▬▬▬▬ ▬▬ ▬ ▬▬▬ ▬▬ ▬▬ ▬▬▬ ▬ ▬▬▬▬ ▬▬ ▬▬▬ ▬▬ ▬ ▬▬▬ ▬▬▬▬ ▬▬ ▬ ▬▬▬ ▬▬ ▬▬ ▬▬▬ ▬ ▬▬▬▬ ▬▬ ▬▬▬ ▬▬ ▬ ▬▬▬ ▬▬▬▬ ▬▬ ▬ ▬▬▬ ▬▬ ▬▬ ▬▬▬ ▬ ▬▬▬▬ ▬▬ ▬▬▬ ▬▬ ▬ ▬▬▬ ▬▬▬▬ ▬▬ ▬ ▬▬▬ ▬▬ ▬▬ ▬▬▬ ▬ ▬▬▬▬ ▬▬ ▬▬▬ ▬▬ ▬ ▬▬▬ ▬▬▬▬ ▬▬ ▬ ▬▬▬ ▬▬ ▬▬ ▬▬▬ ▬ ▬▬▬▬ ▬▬ ▬▬▬ ▬▬ ▬ ▬▬▬ ▬▬▬▬ ▬▬ ▬ ▬▬▬ ▬▬ ▬▬ ▬▬▬ ▬ ▬▬▬▬ ▬▬ ▬▬▬ ▬▬ ▬ ▬▬▬ ▬▬▬▬ ▬▬ ▬ ▬▬▬ ▬▬ ▬▬ ▬▬▬ ▬ ▬▬▬▬ ▬▬ ▬▬▬ ▬▬ ▬ ▬▬▬ ▬▬▬▬ ▬▬ ▬ ▬▬▬ ▬▬ ▬▬ ▬▬▬ ▬ ▬▬▬▬ ▬▬ ▬▬▬ ▬▬ ▬ ▬▬▬ ▬▬▬▬ ▬▬ ▬ ▬▬▬ ▬▬ ▬▬ ▬▬▬ ▬ ▬▬▬▬ ▬▬ ▬▬▬ ▬▬ ▬ ▬▬▬ ▬▬▬▬ ▬▬ ▬ ▬▬▬ ▬▬ ▬▬ ▬▬▬ ▬ ▬▬▬▬ ▬▬ ▬▬▬ ▬▬ ▬ ▬▬▬ ▬▬▬▬ ▬▬ ▬ ▬▬▬ ▬▬ ▬▬ ▬▬▬ ▬ ▬▬▬▬ ▬▬ ▬▬▬ ▬▬ ▬ ▬▬▬ ▬▬▬▬ ▬▬ ▬ ▬▬▬ ▬▬ ▬▬ ▬▬▬ ▬ ▬▬▬▬ ▬▬ ▬▬▬ ▬▬ ▬ ▬▬▬ ▬▬▬▬ ▬▬ ▬ ▬▬▬ ▬▬ ▬▬ ▬▬▬ ▬ ▬▬▬▬ ▬▬ ▬▬▬ ▬▬ ▬ ▬▬▬ ▬▬▬▬ ▬▬ ▬ ▬▬▬ ▬▬ ▬▬ ▬▬▬ ▬ ▬▬▬▬ ▬▬ ▬▬▬ ▬▬ ▬ ▬▬▬ ▬▬▬▬ ▬▬ ▬ ▬▬▬ ▬▬ ▬▬ ▬▬▬ ▬ ▬▬▬▬ ▬▬ ▬▬▬ ▬▬ ▬ ▬▬▬ ▬▬▬▬ ▬▬ ▬ ▬▬▬ ▬▬ ▬▬ ▬▬▬ ▬ ▬▬▬▬ ▬▬ ▬▬▬ ▬▬ ▬ ▬▬▬ ▬▬▬▬ ▬▬ ▬ ▬▬▬ ▬▬ ▬▬ ▬▬▬ ▬ ▬▬▬▬ ▬▬ ▬▬▬ ▬▬ ▬ ▬▬▬ ▬▬▬▬ ▬▬ ▬ ▬▬▬ ▬▬ ▬▬ ▬▬▬ ▬ ▬▬▬▬ ▬▬ ▬▬▬ ▬▬ ▬ ▬▬▬ ▬▬▬▬ ▬▬ ▬ ▬▬▬ ▬▬ ▬▬ ▬▬▬ ▬ ▬▬▬▬ ▬▬ ▬▬▬ ▬▬ ▬ ▬▬▬ ▬▬▬▬ ▬▬ ▬ ▬▬▬ ▬▬ ▬▬ ▬▬▬ ▬ ▬▬▬▬ ▬▬ ▬▬▬ ▬▬ ▬ ▬▬▬ ▬▬▬▬ ▬▬ ▬ ▬▬▬ ▬▬ ▬▬ ▬▬▬ ▬ ▬▬▬▬ ▬▬ ▬▬▬ ▬▬ ▬ ▬▬▬ ▬▬▬▬ ▬▬ ▬ ▬▬▬ ▬▬ ▬▬ ▬▬▬ ▬ ▬▬▬▬ ▬▬ ▬▬▬ ▬▬ ▬ ▬▬▬ ▬▬▬▬ ▬▬ ▬ ▬▬▬ ▬▬ ▬▬ ▬▬▬ ▬ ▬▬▬▬ ▬▬ ▬▬▬ ▬▬ ▬ ▬▬▬ ▬▬▬▬ ▬▬ ▬ ▬▬▬ ▬▬ ▬▬ ▬▬▬ ▬ ▬▬▬▬ ▬▬ ▬▬▬ ▬▬ ▬ ▬▬▬ ▬▬▬▬ ▬▬ ▬ ▬▬▬ ▬▬ ▬▬ ▬▬▬ ▬ ▬▬▬▬ ▬▬ ▬▬▬ ▬▬ ▬ ▬▬▬ ▬▬▬▬ ▬▬ ▬ ▬▬▬ ▬▬ ▬▬ ▬▬▬ ▬ ▬▬▬▬ ▬▬ ▬▬▬ ▬▬ ▬ ▬▬▬ ▬▬▬▬ ▬▬ ▬ ▬▬▬ ▬▬ ▬▬ ▬▬▬ ▬ ▬▬▬▬ ▬▬ ▬▬▬ ▬▬ ▬ ▬▬▬ ▬▬▬▬ ▬▬ ▬ ▬▬▬ ▬▬ ▬▬ ▬▬▬ ▬ ▬▬▬▬ ▬▬ ▬▬▬ ▬▬ ▬ ▬▬▬ ▬▬▬▬ ▬▬ ▬ ▬▬▬ ▬▬ ▬▬ ▬▬▬ ▬ ▬▬▬▬ ▬▬ ▬▬▬ ▬▬ ▬ ▬▬▬ ▬▬▬▬ ▬▬ ▬ ▬▬▬ ▬▬ ▬▬ ▬▬▬ ▬ ▬▬▬▬ ▬▬ ▬▬▬ ▬▬ ▬ ▬▬▬ ▬▬▬▬ ▬▬ ▬ ▬▬▬ ▬▬
वायु गुणवत्ता गंभीर श्रेणी में पहुंचने से
ग्रैप-3 की पाबंदियां लागू
▬▬ ▬▬▬ ▬ ▬▬▬▬ ▬▬ ▬▬▬ ▬▬ ▬ ▬▬▬ ▬▬▬▬ ▬▬ ▬ ▬▬▬ ▬▬ ▬▬ ▬▬▬ ▬ ▬▬▬▬ ▬▬ ▬▬▬ ▬▬ ▬ ▬▬▬ ▬▬▬▬ ▬▬ ▬ ▬▬▬ ▬▬ ▬▬ ▬▬▬ ▬ ▬▬▬▬ ▬▬ ▬▬▬ ▬▬ ▬ ▬▬▬ ▬▬▬▬ ▬▬ ▬ ▬▬▬ ▬▬ ▬▬ ▬▬▬ ▬ ▬▬▬▬ ▬▬ ▬▬▬ ▬▬ ▬ ▬▬▬ ▬▬▬▬ ▬▬ ▬ ▬▬▬ ▬▬ ▬▬ ▬▬▬ ▬ ▬▬▬▬ ▬▬ ▬▬▬ ▬▬ ▬ ▬▬▬ ▬▬▬▬ ▬▬ ▬ ▬▬▬ ▬▬ ▬▬ ▬▬▬ ▬ ▬▬▬▬ ▬▬ ▬▬▬ ▬▬ ▬ ▬▬▬ ▬▬▬▬ ▬▬ ▬ ▬▬▬ ▬▬ ▬▬ ▬▬▬ ▬ ▬▬▬▬ ▬▬ ▬▬▬ ▬▬ ▬ ▬▬▬ ▬▬▬▬ ▬▬ ▬ ▬▬▬ ▬▬ ▬▬ ▬▬▬ ▬ ▬▬▬▬ ▬▬ ▬▬▬ ▬▬ ▬ ▬▬▬ ▬▬▬▬ ▬▬ ▬ ▬▬▬ ▬▬ ▬▬ ▬▬▬ ▬ ▬▬▬▬ ▬▬ ▬▬▬ ▬▬ ▬ ▬▬▬ ▬▬▬▬ ▬▬ ▬ ▬▬▬ ▬▬ ▬▬ ▬▬▬ ▬ ▬▬▬▬ ▬▬ ▬▬▬ ▬▬ ▬ ▬▬▬ ▬▬▬▬ ▬▬ ▬ ▬▬▬ ▬▬ ▬▬ ▬▬▬ ▬ ▬▬▬▬ ▬▬ ▬▬▬ ▬▬ ▬ ▬▬▬ ▬▬▬▬ ▬▬ ▬ ▬▬▬ ▬▬ ▬▬ ▬▬▬ ▬ ▬▬▬▬ ▬▬ ▬▬▬ ▬▬ ▬ ▬▬▬ ▬▬▬▬ ▬▬ ▬ ▬▬▬ ▬▬ ▬▬ ▬▬▬ ▬ ▬▬▬▬ ▬▬ ▬▬▬ ▬▬ ▬ ▬▬▬ ▬▬▬▬ ▬▬ ▬ ▬▬▬ ▬▬ ▬▬ ▬▬▬ ▬ ▬▬▬▬ ▬▬ ▬▬▬ ▬▬ ▬ ▬▬▬ ▬▬▬▬ ▬▬ ▬ ▬▬▬ ▬▬ ▬▬ ▬▬▬ ▬ ▬▬▬▬ ▬▬ ▬▬▬ ▬▬ ▬ ▬▬▬ ▬▬▬▬ ▬▬ ▬ ▬▬▬ ▬▬ ▬▬ ▬▬▬ ▬ ▬▬▬▬ ▬▬ ▬▬▬ ▬▬ ▬ ▬▬▬ ▬▬▬▬ ▬▬ ▬ ▬▬▬ ▬▬ ▬▬ ▬▬▬ ▬ ▬▬▬▬ ▬▬ ▬▬▬ ▬▬ ▬ ▬▬▬ ▬▬▬▬ ▬▬ ▬ ▬▬▬ ▬▬ ▬▬ ▬▬▬ ▬ ▬▬▬▬ ▬▬ ▬▬▬ ▬▬ ▬ ▬▬▬ ▬▬▬▬ ▬▬ ▬ ▬▬▬ ▬▬ ▬▬ ▬▬▬ ▬ ▬▬▬▬ ▬▬ ▬▬▬ ▬▬ ▬ ▬▬▬ ▬▬▬▬ ▬▬ ▬ ▬▬▬ ▬▬ ▬▬ ▬▬▬ ▬ ▬▬▬▬ ▬▬ ▬▬▬ ▬▬ ▬ ▬▬▬ ▬▬▬▬ ▬▬ ▬ ▬▬▬ ▬▬ ▬▬ ▬▬▬ ▬ ▬▬▬▬ ▬▬ ▬▬▬ ▬▬ ▬ ▬▬▬ ▬▬▬▬ ▬▬ ▬ ▬▬▬ ▬▬ ▬▬ ▬▬▬ ▬ ▬▬▬▬ ▬▬ ▬▬▬ ▬▬ ▬ ▬▬▬ ▬▬▬▬ ▬▬ ▬ ▬▬▬ ▬▬ ▬▬ ▬▬▬ ▬ ▬▬▬▬ ▬▬ ▬▬▬ ▬▬ ▬ ▬▬▬ ▬▬▬▬ ▬▬ ▬ ▬▬▬ ▬▬ ▬▬ ▬▬▬ ▬ ▬▬▬▬ ▬▬ ▬▬▬ ▬▬ ▬ ▬▬▬ ▬▬▬▬ ▬▬ ▬ ▬▬▬ ▬▬ ▬▬ ▬▬▬ ▬ ▬▬▬▬ ▬▬ ▬▬▬ ▬▬ ▬ ▬▬▬ ▬▬▬▬ ▬▬ ▬ ▬▬▬ ▬▬ ▬▬ ▬▬▬ ▬ ▬▬▬▬ ▬▬ ▬▬▬ ▬▬ ▬ ▬▬▬ ▬▬▬▬ ▬▬ ▬ ▬▬▬ ▬▬ ▬▬ ▬▬▬ ▬ ▬▬▬▬ ▬▬ ▬▬▬ ▬▬ ▬ ▬▬▬ ▬▬▬▬ ▬▬ ▬ ▬▬▬ ▬▬ ▬▬ ▬▬▬ ▬ ▬▬▬▬ ▬▬ ▬▬▬ ▬▬ ▬ ▬▬▬ ▬▬▬▬ ▬▬ ▬ ▬▬▬ ▬▬ ▬▬ ▬▬▬ ▬ ▬▬▬▬ ▬▬ ▬▬▬ ▬▬ ▬ ▬▬▬ ▬▬▬▬ ▬▬ ▬ ▬▬▬ ▬▬ ▬▬ ▬▬▬ ▬ ▬▬▬▬ ▬▬ ▬▬▬ ▬▬ ▬ ▬▬▬ ▬▬▬▬ ▬▬ ▬ ▬▬▬ ▬▬ ▬▬ ▬▬▬ ▬ ▬▬▬▬ ▬▬ ▬▬▬ ▬▬ ▬ ▬▬▬ ▬▬▬▬ ▬▬ ▬ ▬▬▬ ▬▬ ▬▬ ▬▬▬ ▬ ▬▬▬▬ ▬▬ ▬▬▬ ▬▬ ▬ ▬▬▬ ▬▬▬▬ ▬▬ ▬ ▬▬▬ ▬▬ ▬▬ ▬▬▬ ▬ ▬▬▬▬ ▬▬ ▬▬▬ ▬▬ ▬ ▬▬▬ ▬▬▬▬ ▬▬ ▬ ▬▬▬ ▬▬ ▬▬ ▬▬▬ ▬ ▬▬▬▬ ▬▬ ▬▬▬ ▬▬ ▬ ▬▬▬ ▬▬▬▬ ▬▬ ▬ ▬▬▬ ▬▬ ▬▬ ▬▬▬ ▬ ▬▬▬▬ ▬▬ ▬▬▬ ▬▬ ▬ ▬▬▬ ▬▬▬▬ ▬▬ ▬ ▬▬▬ ▬▬ ▬▬ ▬▬▬ ▬ ▬▬▬▬ ▬▬ ▬▬▬ ▬▬ ▬ ▬▬▬ ▬▬▬▬ ▬▬ ▬ ▬▬▬ ▬▬ ▬▬ ▬▬▬ ▬ ▬▬▬▬ ▬▬ ▬▬▬ ▬▬ ▬ ▬▬▬ ▬▬▬▬ ▬▬ ▬ ▬▬▬ ▬▬ ▬▬ ▬▬▬ ▬ ▬▬▬▬ ▬▬ ▬▬▬ ▬▬ ▬ ▬▬▬ ▬▬▬▬ ▬▬ ▬ ▬▬▬ ▬▬ ▬▬ ▬▬▬ ▬ ▬▬▬▬ ▬▬ ▬▬▬ ▬▬ ▬ ▬▬▬ ▬▬▬▬ ▬▬ ▬ ▬▬▬ ▬▬ ▬▬ ▬▬▬ ▬ ▬▬▬▬ ▬▬ ▬▬▬ ▬▬ ▬ ▬▬▬ ▬▬▬▬ ▬▬ ▬ ▬▬▬ ▬▬ ▬▬ ▬▬▬ ▬ ▬▬▬▬ ▬▬ ▬▬▬ ▬▬ ▬ ▬▬▬ ▬▬▬▬ ▬▬ ▬ ▬▬▬ ▬▬ ▬▬ ▬▬▬ ▬ ▬▬▬▬ ▬▬ ▬▬▬ ▬▬ ▬ ▬▬▬ ▬▬▬▬ ▬▬ ▬ ▬▬▬ ▬▬ ▬▬ ▬▬▬ ▬ ▬▬▬▬ ▬▬ ▬▬▬ ▬▬ ▬ ▬▬▬ ▬▬▬▬ ▬▬ ▬ ▬▬▬ ▬▬ ▬▬ ▬▬▬ ▬ ▬▬▬▬ ▬▬ ▬▬▬ ▬▬ ▬ ▬▬▬ ▬▬▬▬ ▬▬ ▬ ▬▬▬ ▬▬ ▬▬ ▬▬▬ ▬ ▬▬▬▬ ▬▬ ▬▬▬ ▬▬ ▬ ▬▬▬ ▬▬▬▬ ▬▬ ▬ ▬▬▬ ▬▬ ▬▬ ▬▬▬ ▬ ▬▬▬▬ ▬▬ ▬▬▬ ▬▬ ▬ ▬▬▬ ▬▬▬▬ ▬▬ ▬ ▬▬▬ ▬▬ ▬▬ ▬▬▬ ▬ ▬▬▬▬ ▬▬ ▬▬▬ ▬▬ ▬ ▬▬▬ ▬▬▬▬ ▬▬ ▬ ▬▬▬ ▬▬ ▬▬ ▬▬▬ ▬ ▬▬▬▬ ▬▬ ▬▬▬ ▬▬ ▬ ▬▬▬ ▬▬▬▬ ▬▬ ▬ ▬▬▬ ▬▬ ▬▬ ▬▬▬ ▬ ▬▬▬▬ ▬▬ ▬▬▬ ▬▬ ▬ ▬▬▬ ▬▬▬▬ ▬▬ ▬ ▬▬▬ ▬▬ ▬▬ ▬▬▬ ▬ ▬▬▬▬ ▬▬ ▬▬▬ ▬▬ ▬ ▬▬▬ ▬▬▬▬ ▬▬ ▬ ▬▬▬ ▬▬ ▬▬ ▬▬▬ ▬ ▬▬▬▬ ▬▬ ▬▬▬ ▬▬ ▬ ▬▬▬ ▬▬▬▬ ▬▬ ▬ ▬▬▬ ▬▬ ▬▬ ▬▬▬ ▬ ▬▬▬▬ ▬▬ ▬▬▬ ▬▬ ▬ ▬▬▬ ▬▬▬▬ ▬▬ ▬ ▬▬▬ ▬▬ ▬▬ ▬▬▬ ▬ ▬▬▬▬ ▬▬ ▬▬▬ ▬▬ ▬ ▬▬▬ ▬▬▬▬ ▬▬ ▬ ▬▬▬ ▬▬ ▬▬ ▬▬▬ ▬ ▬▬▬▬ ▬▬ ▬▬▬ ▬▬ ▬ ▬▬▬ ▬▬▬▬ ▬▬ ▬ ▬▬▬ ▬▬ ▬▬ ▬▬▬ ▬ ▬▬▬▬ ▬▬ ▬▬▬ ▬▬ ▬ ▬▬▬ ▬▬▬▬ ▬▬ ▬ ▬▬▬ ▬▬ ▬▬ ▬▬▬ ▬ ▬▬▬▬ ▬▬ ▬▬▬ ▬▬ ▬ ▬▬▬ ▬▬▬▬ ▬▬ ▬ ▬▬▬ ▬▬ ▬▬ ▬▬▬ ▬ ▬▬▬▬ ▬▬ ▬▬▬ ▬▬ ▬ ▬▬▬ ▬▬▬▬ ▬▬ ▬ ▬▬▬ ▬▬ ▬▬ ▬▬▬ ▬ ▬▬▬▬ ▬▬ ▬▬▬ ▬▬ ▬ ▬▬▬ ▬▬▬▬ ▬▬ ▬ ▬▬▬ ▬▬ ▬▬ ▬▬▬ ▬ ▬▬▬▬ ▬▬ ▬▬▬ ▬▬ ▬ ▬▬▬ ▬▬▬▬ ▬▬ ▬ ▬▬▬ ▬▬ ▬▬ ▬▬▬ ▬ ▬▬▬▬ ▬▬ ▬▬▬ ▬▬ ▬ ▬▬▬ ▬▬▬▬ ▬▬ ▬ ▬▬▬ ▬▬
क्रांतिकारी विचारधारा के हिमायती रहे
क्रांतिकारी राधा मोहन
▬▬ ▬▬▬ ▬ ▬▬▬▬ ▬▬ ▬▬▬ ▬▬ ▬ ▬▬▬ ▬▬▬▬ ▬▬ ▬ ▬▬▬ ▬▬ ▬▬ ▬▬▬ ▬ ▬▬▬▬ ▬▬ ▬▬▬ ▬▬ ▬ ▬▬▬ ▬▬▬▬ ▬▬ ▬ ▬▬▬ ▬▬ ▬▬ ▬▬▬ ▬ ▬▬▬▬ ▬▬ ▬▬▬ ▬▬ ▬ ▬▬▬ ▬▬▬▬ ▬▬ ▬ ▬▬▬ ▬▬ ▬▬ ▬▬▬ ▬ ▬▬▬▬ ▬▬ ▬▬▬ ▬▬ ▬ ▬▬▬ ▬▬▬▬ ▬▬ ▬ ▬▬▬ ▬▬ ▬▬ ▬▬▬ ▬ ▬▬▬▬ ▬▬ ▬▬▬ ▬▬ ▬ ▬▬▬ ▬▬▬▬ ▬▬ ▬ ▬▬▬ ▬▬ ▬▬ ▬▬▬ ▬ ▬▬▬▬ ▬▬ ▬▬▬ ▬▬ ▬ ▬▬▬ ▬▬▬▬ ▬▬ ▬ ▬▬▬ ▬▬ ▬▬ ▬▬▬ ▬ ▬▬▬▬ ▬▬ ▬▬▬ ▬▬ ▬ ▬▬▬ ▬▬▬▬ ▬▬ ▬ ▬▬▬ ▬▬ ▬▬ ▬▬▬ ▬ ▬▬▬▬ ▬▬ ▬▬▬ ▬▬ ▬ ▬▬▬ ▬▬▬▬ ▬▬ ▬ ▬▬▬ ▬▬ ▬▬ ▬▬▬ ▬ ▬▬▬▬ ▬▬ ▬▬▬ ▬▬ ▬ ▬▬▬ ▬▬▬▬ ▬▬ ▬ ▬▬▬ ▬▬ ▬▬ ▬▬▬ ▬ ▬▬▬▬ ▬▬ ▬▬▬ ▬▬ ▬ ▬▬▬ ▬▬▬▬ ▬▬ ▬ ▬▬▬ ▬▬ ▬▬ ▬▬▬ ▬ ▬▬▬▬ ▬▬ ▬▬▬ ▬▬ ▬ ▬▬▬ ▬▬▬▬ ▬▬ ▬ ▬▬▬ ▬▬ ▬▬ ▬▬▬ ▬ ▬▬▬▬ ▬▬ ▬▬▬ ▬▬ ▬ ▬▬▬ ▬▬▬▬ ▬▬ ▬ ▬▬▬ ▬▬ ▬▬ ▬▬▬ ▬ ▬▬▬▬ ▬▬ ▬▬▬ ▬▬ ▬ ▬▬▬ ▬▬▬▬ ▬▬ ▬ ▬▬▬ ▬▬ ▬▬ ▬▬▬ ▬ ▬▬▬▬ ▬▬ ▬▬▬ ▬▬ ▬ ▬▬▬ ▬▬▬▬ ▬▬ ▬ ▬▬▬ ▬▬ ▬▬ ▬▬▬ ▬ ▬▬▬▬ ▬▬ ▬▬▬ ▬▬ ▬ ▬▬▬ ▬▬▬▬ ▬▬ ▬ ▬▬▬ ▬▬ ▬▬ ▬▬▬ ▬ ▬▬▬▬ ▬▬ ▬▬▬ ▬▬ ▬ ▬▬▬ ▬▬▬▬ ▬▬ ▬ ▬▬▬ ▬▬ ▬▬ ▬▬▬ ▬ ▬▬▬▬ ▬▬ ▬▬▬ ▬▬ ▬ ▬▬▬ ▬▬▬▬ ▬▬ ▬ ▬▬▬ ▬▬ ▬▬ ▬▬▬ ▬ ▬▬▬▬ ▬▬ ▬▬▬ ▬▬ ▬ ▬▬▬ ▬▬▬▬ ▬▬ ▬ ▬▬▬ ▬▬ ▬▬ ▬▬▬ ▬ ▬▬▬▬ ▬▬ ▬▬▬ ▬▬ ▬ ▬▬▬ ▬▬▬▬ ▬▬ ▬ ▬▬▬ ▬▬ ▬▬ ▬▬▬ ▬ ▬▬▬▬ ▬▬ ▬▬▬ ▬▬ ▬ ▬▬▬ ▬▬▬▬ ▬▬ ▬ ▬▬▬ ▬▬ ▬▬ ▬▬▬ ▬ ▬▬▬▬ ▬▬ ▬▬▬ ▬▬ ▬ ▬▬▬ ▬▬▬▬ ▬▬ ▬ ▬▬▬ ▬▬ ▬▬ ▬▬▬ ▬ ▬▬▬▬ ▬▬ ▬▬▬ ▬▬ ▬ ▬▬▬ ▬▬▬▬ ▬▬ ▬ ▬▬▬ ▬▬ ▬▬ ▬▬▬ ▬ ▬▬▬▬ ▬▬ ▬▬▬ ▬▬ ▬ ▬▬▬ ▬▬▬▬ ▬▬ ▬ ▬▬▬ ▬▬ ▬▬ ▬▬▬ ▬ ▬▬▬▬ ▬▬ ▬▬▬ ▬▬ ▬ ▬▬▬ ▬▬▬▬ ▬▬ ▬ ▬▬▬ ▬▬ ▬▬ ▬▬▬ ▬ ▬▬▬▬ ▬▬ ▬▬▬ ▬▬ ▬ ▬▬▬ ▬▬▬▬ ▬▬ ▬ ▬▬▬ ▬▬ ▬▬ ▬▬▬ ▬ ▬▬▬▬ ▬▬ ▬▬▬ ▬▬ ▬ ▬▬▬ ▬▬▬▬ ▬▬ ▬ ▬▬▬ ▬▬ ▬▬ ▬▬▬ ▬ ▬▬▬▬ ▬▬ ▬▬▬ ▬▬ ▬ ▬▬▬ ▬▬▬▬ ▬▬ ▬ ▬▬▬ ▬▬ ▬▬ ▬▬▬ ▬ ▬▬▬▬ ▬▬ ▬▬▬ ▬▬ ▬ ▬▬▬ ▬▬▬▬ ▬▬ ▬ ▬▬▬ ▬▬ ▬▬ ▬▬▬ ▬ ▬▬▬▬ ▬▬ ▬▬▬ ▬▬ ▬ ▬▬▬ ▬▬▬▬ ▬▬ ▬ ▬▬▬ ▬▬ ▬▬ ▬▬▬ ▬ ▬▬▬▬ ▬▬ ▬▬▬ ▬▬ ▬ ▬▬▬ ▬▬▬▬ ▬▬ ▬ ▬▬▬ ▬▬ ▬▬ ▬▬▬ ▬ ▬▬▬▬ ▬▬ ▬▬▬ ▬▬ ▬ ▬▬▬ ▬▬▬▬ ▬▬ ▬ ▬▬▬ ▬▬ ▬▬ ▬▬▬ ▬ ▬▬▬▬ ▬▬ ▬▬▬ ▬▬ ▬ ▬▬▬ ▬▬▬▬ ▬▬ ▬ ▬▬▬ ▬▬ ▬▬ ▬▬▬ ▬ ▬▬▬▬ ▬▬ ▬▬▬ ▬▬ ▬ ▬▬▬ ▬▬▬▬ ▬▬ ▬ ▬▬▬ ▬▬ ▬▬ ▬▬▬ ▬ ▬▬▬▬ ▬▬ ▬▬▬ ▬▬ ▬ ▬▬▬ ▬▬▬▬ ▬▬ ▬ ▬▬▬ ▬▬ ▬▬ ▬▬▬ ▬ ▬▬▬▬ ▬▬ ▬▬▬ ▬▬ ▬ ▬▬▬ ▬▬▬▬ ▬▬ ▬ ▬▬▬ ▬▬ ▬▬ ▬▬▬ ▬ ▬▬▬▬ ▬▬ ▬▬▬ ▬▬ ▬ ▬▬▬ ▬▬▬▬ ▬▬ ▬ ▬▬▬ ▬▬ ▬▬ ▬▬▬ ▬ ▬▬▬▬ ▬▬ ▬▬▬ ▬▬ ▬ ▬▬▬ ▬▬▬▬ ▬▬ ▬ ▬▬▬ ▬▬ ▬▬ ▬▬▬ ▬ ▬▬▬▬ ▬▬ ▬▬▬ ▬▬ ▬ ▬▬▬ ▬▬▬▬ ▬▬ ▬ ▬▬▬ ▬▬ ▬▬ ▬▬▬ ▬ ▬▬▬▬ ▬▬ ▬▬▬ ▬▬ ▬ ▬▬▬ ▬▬▬▬ ▬▬ ▬ ▬▬▬ ▬▬ ▬▬ ▬▬▬ ▬ ▬▬▬▬ ▬▬ ▬▬▬ ▬▬ ▬ ▬▬▬ ▬▬▬▬ ▬▬ ▬ ▬▬▬ ▬▬ ▬▬ ▬▬▬ ▬ ▬▬▬▬ ▬▬ ▬▬▬ ▬▬ ▬ ▬▬▬ ▬▬▬▬ ▬▬ ▬ ▬▬▬ ▬▬ ▬▬ ▬▬▬ ▬ ▬▬▬▬ ▬▬ ▬▬▬ ▬▬ ▬ ▬▬▬ ▬▬▬▬ ▬▬ ▬ ▬▬▬ ▬▬ ▬▬ ▬▬▬ ▬ ▬▬▬▬ ▬▬ ▬▬▬ ▬▬ ▬ ▬▬▬ ▬▬▬▬ ▬▬ ▬ ▬▬▬ ▬▬ ▬▬ ▬▬▬ ▬ ▬▬▬▬ ▬▬ ▬▬▬ ▬▬ ▬ ▬▬▬ ▬▬▬▬ ▬▬ ▬ ▬▬▬ ▬▬ ▬▬ ▬▬▬ ▬ ▬▬▬▬ ▬▬ ▬▬▬ ▬▬ ▬ ▬▬▬ ▬▬▬▬ ▬▬ ▬ ▬▬▬ ▬▬ ▬▬ ▬▬▬ ▬ ▬▬▬▬ ▬▬ ▬▬▬ ▬▬ ▬ ▬▬▬ ▬▬▬▬ ▬▬ ▬ ▬▬▬ ▬▬ ▬▬ ▬▬▬ ▬ ▬▬▬▬ ▬▬ ▬▬▬ ▬▬ ▬ ▬▬▬ ▬▬▬▬ ▬▬ ▬ ▬▬▬ ▬▬ ▬▬ ▬▬▬ ▬ ▬▬▬▬ ▬▬ ▬▬▬ ▬▬ ▬ ▬▬▬ ▬▬▬▬ ▬▬ ▬ ▬▬▬ ▬▬ ▬▬ ▬▬▬ ▬ ▬▬▬▬ ▬▬ ▬▬▬ ▬▬ ▬ ▬▬▬ ▬▬▬▬ ▬▬ ▬ ▬▬▬ ▬▬ ▬▬ ▬▬▬ ▬ ▬▬▬▬ ▬▬ ▬▬▬ ▬▬ ▬ ▬▬▬ ▬▬▬▬ ▬▬ ▬ ▬▬▬ ▬▬ ▬▬ ▬▬▬ ▬ ▬▬▬▬ ▬▬ ▬▬▬ ▬▬ ▬ ▬▬▬ ▬▬▬▬ ▬▬ ▬ ▬▬▬ ▬▬ ▬▬ ▬▬▬ ▬ ▬▬▬▬ ▬▬ ▬▬▬ ▬▬ ▬ ▬▬▬ ▬▬▬▬ ▬▬ ▬ ▬▬▬ ▬▬ ▬▬ ▬▬▬ ▬ ▬▬▬▬ ▬▬ ▬▬▬ ▬▬ ▬ ▬▬▬ ▬▬▬▬ ▬▬ ▬ ▬▬▬ ▬▬ ▬▬ ▬▬▬ ▬ ▬▬▬▬ ▬▬ ▬▬▬ ▬▬ ▬ ▬▬▬ ▬▬▬▬ ▬▬ ▬ ▬▬▬ ▬▬ ▬▬ ▬▬▬ ▬ ▬▬▬▬ ▬▬ ▬▬▬ ▬▬ ▬ ▬▬▬ ▬▬▬▬ ▬▬ ▬ ▬▬▬ ▬▬ ▬▬ ▬▬▬ ▬ ▬▬▬▬ ▬▬ ▬▬▬ ▬▬ ▬ ▬▬▬ ▬▬▬▬ ▬▬ ▬ ▬▬▬ ▬▬ ▬▬ ▬▬▬ ▬ ▬▬▬▬ ▬▬ ▬▬▬ ▬▬ ▬ ▬▬▬ ▬▬▬▬ ▬▬ ▬ ▬▬▬ ▬▬ ▬▬ ▬▬▬ ▬ ▬▬▬▬ ▬▬ ▬▬▬ ▬▬ ▬ ▬▬▬ ▬▬▬▬ ▬▬ ▬ ▬▬▬ ▬▬ ▬▬ ▬▬▬ ▬ ▬▬▬▬ ▬▬ ▬▬▬ ▬▬ ▬ ▬▬▬ ▬▬▬▬ ▬▬ ▬ ▬▬▬ ▬▬ ▬▬ ▬▬▬ ▬ ▬▬▬▬ ▬▬ ▬▬▬ ▬▬ ▬ ▬▬▬ ▬▬▬▬ ▬▬ ▬ ▬▬▬ ▬▬
आवंटित किए गए प्लाटों में
चल रही है अवैध गतिविधियां
▬▬ ▬▬▬ ▬ ▬▬▬▬ ▬▬ ▬▬▬ ▬▬ ▬ ▬▬▬ ▬▬▬▬ ▬▬ ▬ ▬▬▬ ▬▬ ▬▬ ▬▬▬ ▬ ▬▬▬▬ ▬▬ ▬▬▬ ▬▬ ▬ ▬▬▬ ▬▬▬▬ ▬▬ ▬ ▬▬▬ ▬▬ ▬▬ ▬▬▬ ▬ ▬▬▬▬ ▬▬ ▬▬▬ ▬▬ ▬ ▬▬▬ ▬▬▬▬ ▬▬ ▬ ▬▬▬ ▬▬ ▬▬ ▬▬▬ ▬ ▬▬▬▬ ▬▬ ▬▬▬ ▬▬ ▬ ▬▬▬ ▬▬▬▬ ▬▬ ▬ ▬▬▬ ▬▬ ▬▬ ▬▬▬ ▬ ▬▬▬▬ ▬▬ ▬▬▬ ▬▬ ▬ ▬▬▬ ▬▬▬▬ ▬▬ ▬ ▬▬▬ ▬▬ ▬▬ ▬▬▬ ▬ ▬▬▬▬ ▬▬ ▬▬▬ ▬▬ ▬ ▬▬▬ ▬▬▬▬ ▬▬ ▬ ▬▬▬ ▬▬ ▬▬ ▬▬▬ ▬ ▬▬▬▬ ▬▬ ▬▬▬ ▬▬ ▬ ▬▬▬ ▬▬▬▬ ▬▬ ▬ ▬▬▬ ▬▬ ▬▬ ▬▬▬ ▬ ▬▬▬▬ ▬▬ ▬▬▬ ▬▬ ▬ ▬▬▬ ▬▬▬▬ ▬▬ ▬ ▬▬▬ ▬▬ ▬▬ ▬▬▬ ▬ ▬▬▬▬ ▬▬ ▬▬▬ ▬▬ ▬ ▬▬▬ ▬▬▬▬ ▬▬ ▬ ▬▬▬ ▬▬ ▬▬ ▬▬▬ ▬ ▬▬▬▬ ▬▬ ▬▬▬ ▬▬ ▬ ▬▬▬ ▬▬▬▬ ▬▬ ▬ ▬▬▬ ▬▬ ▬▬ ▬▬▬ ▬ ▬▬▬▬ ▬▬ ▬▬▬ ▬▬ ▬ ▬▬▬ ▬▬▬▬ ▬▬ ▬ ▬▬▬ ▬▬ ▬▬ ▬▬▬ ▬ ▬▬▬▬ ▬▬ ▬▬▬ ▬▬ ▬ ▬▬▬ ▬▬▬▬ ▬▬ ▬ ▬▬▬ ▬▬ ▬▬ ▬▬▬ ▬ ▬▬▬▬ ▬▬ ▬▬▬ ▬▬ ▬ ▬▬▬ ▬▬▬▬ ▬▬ ▬ ▬▬▬ ▬▬ ▬▬ ▬▬▬ ▬ ▬▬▬▬ ▬▬ ▬▬▬ ▬▬ ▬ ▬▬▬ ▬▬▬▬ ▬▬ ▬ ▬▬▬ ▬▬ ▬▬ ▬▬▬ ▬ ▬▬▬▬ ▬▬ ▬▬▬ ▬▬ ▬ ▬▬▬ ▬▬▬▬ ▬▬ ▬ ▬▬▬ ▬▬ ▬▬ ▬▬▬ ▬ ▬▬▬▬ ▬▬ ▬▬▬ ▬▬ ▬ ▬▬▬ ▬▬▬▬ ▬▬ ▬ ▬▬▬ ▬▬ ▬▬ ▬▬▬ ▬ ▬▬▬▬ ▬▬ ▬▬▬ ▬▬ ▬ ▬▬▬ ▬▬▬▬ ▬▬ ▬ ▬▬▬ ▬▬ ▬▬ ▬▬▬ ▬ ▬▬▬▬ ▬▬ ▬▬▬ ▬▬ ▬ ▬▬▬ ▬▬▬▬ ▬▬ ▬ ▬▬▬ ▬▬ ▬▬ ▬▬▬ ▬ ▬▬▬▬ ▬▬ ▬▬▬ ▬▬ ▬ ▬▬▬ ▬▬▬▬ ▬▬ ▬ ▬▬▬ ▬▬ ▬▬ ▬▬▬ ▬ ▬▬▬▬ ▬▬ ▬▬▬ ▬▬ ▬ ▬▬▬ ▬▬▬▬ ▬▬ ▬ ▬▬▬ ▬▬ ▬▬ ▬▬▬ ▬ ▬▬▬▬ ▬▬ ▬▬▬ ▬▬ ▬ ▬▬▬ ▬▬▬▬ ▬▬ ▬ ▬▬▬ ▬▬ ▬▬ ▬▬▬ ▬ ▬▬▬▬ ▬▬ ▬▬▬ ▬▬ ▬ ▬▬▬ ▬▬▬▬ ▬▬ ▬ ▬▬▬ ▬▬ ▬▬ ▬▬▬ ▬ ▬▬▬▬ ▬▬ ▬▬▬ ▬▬ ▬ ▬▬▬ ▬▬▬▬ ▬▬ ▬ ▬▬▬ ▬▬ ▬▬ ▬▬▬ ▬ ▬▬▬▬ ▬▬ ▬▬▬ ▬▬ ▬ ▬▬▬ ▬▬▬▬ ▬▬ ▬ ▬▬▬ ▬▬ ▬▬ ▬▬▬ ▬ ▬▬▬▬ ▬▬ ▬▬▬ ▬▬ ▬ ▬▬▬ ▬▬▬▬ ▬▬ ▬ ▬▬▬ ▬▬ ▬▬ ▬▬▬ ▬ ▬▬▬▬ ▬▬ ▬▬▬ ▬▬ ▬ ▬▬▬ ▬▬▬▬ ▬▬ ▬ ▬▬▬ ▬▬ ▬▬ ▬▬▬ ▬ ▬▬▬▬ ▬▬ ▬▬▬ ▬▬ ▬ ▬▬▬ ▬▬▬▬ ▬▬ ▬ ▬▬▬ ▬▬ ▬▬ ▬▬▬ ▬ ▬▬▬▬ ▬▬ ▬▬▬ ▬▬ ▬ ▬▬▬ ▬▬▬▬ ▬▬ ▬ ▬▬▬ ▬▬ ▬▬ ▬▬▬ ▬ ▬▬▬▬ ▬▬ ▬▬▬ ▬▬ ▬ ▬▬▬ ▬▬▬▬ ▬▬ ▬ ▬▬▬ ▬▬ ▬▬ ▬▬▬ ▬ ▬▬▬▬ ▬▬ ▬▬▬ ▬▬ ▬ ▬▬▬ ▬▬▬▬ ▬▬ ▬ ▬▬▬ ▬▬ ▬▬ ▬▬▬ ▬ ▬▬▬▬ ▬▬ ▬▬▬ ▬▬ ▬ ▬▬▬ ▬▬▬▬ ▬▬ ▬ ▬▬▬ ▬▬ ▬▬ ▬▬▬ ▬ ▬▬▬▬ ▬▬ ▬▬▬ ▬▬ ▬ ▬▬▬ ▬▬▬▬ ▬▬ ▬ ▬▬▬ ▬▬ ▬▬ ▬▬▬ ▬ ▬▬▬▬ ▬▬ ▬▬▬ ▬▬ ▬ ▬▬▬ ▬▬▬▬ ▬▬ ▬ ▬▬▬ ▬▬ ▬▬ ▬▬▬ ▬ ▬▬▬▬ ▬▬ ▬▬▬ ▬▬ ▬ ▬▬▬ ▬▬▬▬ ▬▬ ▬ ▬▬▬ ▬▬ ▬▬ ▬▬▬ ▬ ▬▬▬▬ ▬▬ ▬▬▬ ▬▬ ▬ ▬▬▬ ▬▬▬▬ ▬▬ ▬ ▬▬▬ ▬▬ ▬▬ ▬▬▬ ▬ ▬▬▬▬ ▬▬ ▬▬▬ ▬▬ ▬ ▬▬▬ ▬▬▬▬ ▬▬ ▬ ▬▬▬ ▬▬ ▬▬ ▬▬▬ ▬ ▬▬▬▬ ▬▬ ▬▬▬ ▬▬ ▬ ▬▬▬ ▬▬▬▬ ▬▬ ▬ ▬▬▬ ▬▬ ▬▬ ▬▬▬ ▬ ▬▬▬▬ ▬▬ ▬▬▬ ▬▬ ▬ ▬▬▬ ▬▬▬▬ ▬▬ ▬ ▬▬▬ ▬▬ ▬▬ ▬▬▬ ▬ ▬▬▬▬ ▬▬ ▬▬▬ ▬▬ ▬ ▬▬▬ ▬▬▬▬ ▬▬ ▬ ▬▬▬ ▬▬ ▬▬ ▬▬▬ ▬ ▬▬▬▬ ▬▬ ▬▬▬ ▬▬ ▬ ▬▬▬ ▬▬▬▬ ▬▬ ▬ ▬▬▬ ▬▬ ▬▬ ▬▬▬ ▬ ▬▬▬▬ ▬▬ ▬▬▬ ▬▬ ▬ ▬▬▬ ▬▬▬▬ ▬▬ ▬ ▬▬▬ ▬▬ ▬▬ ▬▬▬ ▬ ▬▬▬▬ ▬▬ ▬▬▬ ▬▬ ▬ ▬▬▬ ▬▬▬▬ ▬▬ ▬ ▬▬▬ ▬▬ ▬▬ ▬▬▬ ▬ ▬▬▬▬ ▬▬ ▬▬▬ ▬▬ ▬ ▬▬▬ ▬▬▬▬ ▬▬ ▬ ▬▬▬ ▬▬ ▬▬ ▬▬▬ ▬ ▬▬▬▬ ▬▬ ▬▬▬ ▬▬ ▬ ▬▬▬ ▬▬▬▬ ▬▬ ▬ ▬▬▬ ▬▬ ▬▬ ▬▬▬ ▬ ▬▬▬▬ ▬▬ ▬▬▬ ▬▬ ▬ ▬▬▬ ▬▬▬▬ ▬▬ ▬ ▬▬▬ ▬▬ ▬▬ ▬▬▬ ▬ ▬▬▬▬ ▬▬ ▬▬▬ ▬▬ ▬ ▬▬▬ ▬▬▬▬ ▬▬ ▬ ▬▬▬ ▬▬ ▬▬ ▬▬▬ ▬ ▬▬▬▬ ▬▬ ▬▬▬ ▬▬ ▬ ▬▬▬ ▬▬▬▬ ▬▬ ▬ ▬▬▬ ▬▬ ▬▬ ▬▬▬ ▬ ▬▬▬▬ ▬▬ ▬▬▬ ▬▬ ▬ ▬▬▬ ▬▬▬▬ ▬▬ ▬ ▬▬▬ ▬▬ ▬▬ ▬▬▬ ▬ ▬▬▬▬ ▬▬ ▬▬▬ ▬▬ ▬ ▬▬▬ ▬▬▬▬ ▬▬ ▬ ▬▬▬ ▬▬ ▬▬ ▬▬▬ ▬ ▬▬▬▬ ▬▬ ▬▬▬ ▬▬ ▬ ▬▬▬ ▬▬▬▬ ▬▬ ▬ ▬▬▬ ▬▬ ▬▬ ▬▬▬ ▬ ▬▬▬▬ ▬▬ ▬▬▬ ▬▬ ▬ ▬▬▬ ▬▬▬▬ ▬▬ ▬ ▬▬▬ ▬▬ ▬▬ ▬▬▬ ▬ ▬▬▬▬ ▬▬ ▬▬▬ ▬▬ ▬ ▬▬▬ ▬▬▬▬ ▬▬ ▬ ▬▬▬ ▬▬ ▬▬ ▬▬▬ ▬ ▬▬▬▬ ▬▬ ▬▬▬ ▬▬ ▬ ▬▬▬ ▬▬▬▬ ▬▬ ▬ ▬▬▬ ▬▬ ▬▬ ▬▬▬ ▬ ▬▬▬▬ ▬▬ ▬▬▬ ▬▬ ▬ ▬▬▬ ▬▬▬▬ ▬▬ ▬ ▬▬▬ ▬▬ ▬▬ ▬▬▬ ▬ ▬▬▬▬ ▬▬ ▬▬▬ ▬▬ ▬ ▬▬▬ ▬▬▬▬ ▬▬ ▬ ▬▬▬ ▬▬ ▬▬ ▬▬▬ ▬ ▬▬▬▬ ▬▬ ▬▬▬ ▬▬ ▬ ▬▬▬ ▬▬▬▬ ▬▬ ▬ ▬▬▬ ▬▬ ▬▬ ▬▬▬ ▬ ▬▬▬▬ ▬▬ ▬▬▬ ▬▬ ▬ ▬▬▬ ▬▬▬▬ ▬▬ ▬ ▬▬▬ ▬▬ ▬▬ ▬▬▬ ▬ ▬▬▬▬ ▬▬ ▬▬▬ ▬▬ ▬ ▬▬▬ ▬▬▬▬ ▬▬ ▬ ▬▬▬ ▬▬ ▬▬ ▬▬▬ ▬ ▬▬▬▬ ▬▬ ▬▬▬ ▬▬ ▬ ▬▬▬ ▬▬▬▬ ▬▬ ▬ ▬▬▬ ▬▬ ▬▬ ▬▬▬ ▬ ▬▬▬▬ ▬▬ ▬▬▬ ▬▬ ▬ ▬▬▬ ▬▬▬▬ ▬▬ ▬ ▬▬▬ ▬▬
